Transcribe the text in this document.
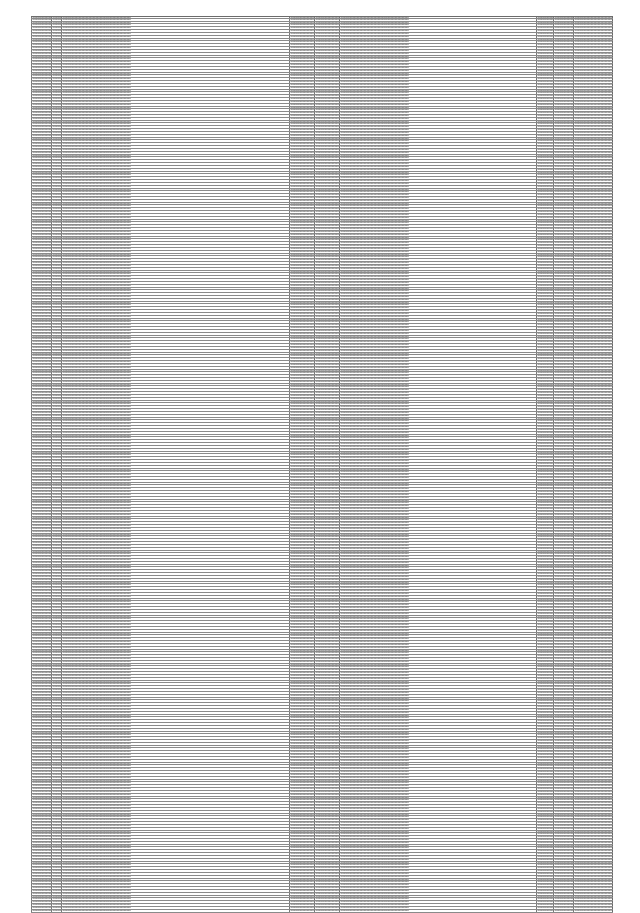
▪▪▪▪▪▪▪▪▪▪▪▪▪▪▪▪▪▪▪▪▪▪	▪▪▪▪▪▪▪▪▪▪▪ ▪▪▪▪▪▪▪▪▪▪▪▪▪▪▪▪▪▪▪▪▪▪▪▪▪▪▪▪▪▪▪▪▪▪▪▪▪▪▪▪▪▪▪▪▪▪▪▪▪▪▪▪▪▪▪▪▪▪▪▪▪▪▪▪▪▪▪▪▪▪▪▪▪▪▪▪▪▪▪▪▪▪▪▪▪▪▪▪	▪▪▪▪▪▪▪▪▪▪▪▪▪▪▪▪▪▪▪▪▪▪▪▪▪▪▪▪▪▪ ▪▪▪▪▪▪▪▪▪▪▪▪▪▪▪▪▪▪▪▪▪▪▪▪▪▪▪▪▪▪ ▪▪▪▪▪▪▪▪▪▪▪▪▪▪▪▪▪▪▪▪▪▪▪▪▪▪▪▪▪▪▪▪▪▪▪▪▪▪▪▪▪▪▪▪▪▪▪▪▪▪▪▪▪▪▪▪▪▪▪▪▪▪▪▪▪▪▪▪▪▪▪▪▪▪▪▪▪▪▪▪▪▪▪▪▪▪▪▪	▪▪▪▪▪▪▪▪▪▪▪▪▪▪▪▪▪▪▪▪▪▪ ▪▪▪▪▪▪▪▪▪▪▪▪▪▪▪▪▪▪▪▪▪▪	▪▪▪▪▪▪▪▪▪▪▪▪▪▪▪▪▪▪▪▪▪▪▪▪▪▪▪▪▪▪▪▪▪▪▪▪▪▪▪▪▪▪▪▪▪▪▪▪▪
▪▪▪▪▪▪▪▪▪▪▪▪▪▪▪▪▪▪▪▪▪▪	▪▪▪▪▪▪▪▪▪▪▪ ▪▪▪▪▪▪▪▪▪▪▪▪▪▪▪▪▪▪▪▪▪▪▪▪▪▪▪▪▪▪▪▪▪▪▪▪▪▪▪▪▪▪▪▪▪▪▪▪▪▪▪▪▪▪▪▪▪▪▪▪▪▪▪▪▪▪▪▪▪▪▪▪▪▪▪▪▪▪▪▪▪▪▪▪▪▪▪▪	▪▪▪▪▪▪▪▪▪▪▪▪▪▪▪▪▪▪▪▪▪▪▪▪▪▪▪▪▪▪ ▪▪▪▪▪▪▪▪▪▪▪▪▪▪▪▪▪▪▪▪▪▪▪▪▪▪▪▪▪▪ ▪▪▪▪▪▪▪▪▪▪▪▪▪▪▪▪▪▪▪▪▪▪▪▪▪▪▪▪▪▪▪▪▪▪▪▪▪▪▪▪▪▪▪▪▪▪▪▪▪▪▪▪▪▪▪▪▪▪▪▪▪▪▪▪▪▪▪▪▪▪▪▪▪▪▪▪▪▪▪▪▪▪▪▪▪▪▪▪	▪▪▪▪▪▪▪▪▪▪▪▪▪▪▪▪▪▪▪▪▪▪ ▪▪▪▪▪▪▪▪▪▪▪▪▪▪▪▪▪▪▪▪▪▪	▪▪▪▪▪▪▪▪▪▪▪▪▪▪▪▪▪▪▪▪▪▪▪▪▪▪▪▪▪▪▪▪▪▪▪▪▪▪▪▪▪▪▪▪▪▪▪▪▪
▪▪▪▪▪▪▪▪▪▪▪▪▪▪▪▪▪▪▪▪▪▪	▪▪▪▪▪▪▪▪▪▪▪ ▪▪▪▪▪▪▪▪▪▪▪▪▪▪▪▪▪▪▪▪▪▪▪▪▪▪▪▪▪▪▪▪▪▪▪▪▪▪▪▪▪▪▪▪▪▪▪▪▪▪▪▪▪▪▪▪▪▪▪▪▪▪▪▪▪▪▪▪▪▪▪▪▪▪▪▪▪▪▪▪▪▪▪▪▪▪▪▪	▪▪▪▪▪▪▪▪▪▪▪▪▪▪▪▪▪▪▪▪▪▪▪▪▪▪▪▪▪▪ ▪▪▪▪▪▪▪▪▪▪▪▪▪▪▪▪▪▪▪▪▪▪▪▪▪▪▪▪▪▪ ▪▪▪▪▪▪▪▪▪▪▪▪▪▪▪▪▪▪▪▪▪▪▪▪▪▪▪▪▪▪▪▪▪▪▪▪▪▪▪▪▪▪▪▪▪▪▪▪▪▪▪▪▪▪▪▪▪▪▪▪▪▪▪▪▪▪▪▪▪▪▪▪▪▪▪▪▪▪▪▪▪▪▪▪▪▪▪▪	▪▪▪▪▪▪▪▪▪▪▪▪▪▪▪▪▪▪▪▪▪▪ ▪▪▪▪▪▪▪▪▪▪▪▪▪▪▪▪▪▪▪▪▪▪	▪▪▪▪▪▪▪▪▪▪▪▪▪▪▪▪▪▪▪▪▪▪▪▪▪▪▪▪▪▪▪▪▪▪▪▪▪▪▪▪▪▪▪▪▪▪▪▪▪
▪▪▪▪▪▪▪▪▪▪▪▪▪▪▪▪▪▪▪▪▪▪	▪▪▪▪▪▪▪▪▪▪▪ ▪▪▪▪▪▪▪▪▪▪▪▪▪▪▪▪▪▪▪▪▪▪▪▪▪▪▪▪▪▪▪▪▪▪▪▪▪▪▪▪▪▪▪▪▪▪▪▪▪▪▪▪▪▪▪▪▪▪▪▪▪▪▪▪▪▪▪▪▪▪▪▪▪▪▪▪▪▪▪▪▪▪▪▪▪▪▪▪	▪▪▪▪▪▪▪▪▪▪▪▪▪▪▪▪▪▪▪▪▪▪▪▪▪▪▪▪▪▪ ▪▪▪▪▪▪▪▪▪▪▪▪▪▪▪▪▪▪▪▪▪▪▪▪▪▪▪▪▪▪ ▪▪▪▪▪▪▪▪▪▪▪▪▪▪▪▪▪▪▪▪▪▪▪▪▪▪▪▪▪▪▪▪▪▪▪▪▪▪▪▪▪▪▪▪▪▪▪▪▪▪▪▪▪▪▪▪▪▪▪▪▪▪▪▪▪▪▪▪▪▪▪▪▪▪▪▪▪▪▪▪▪▪▪▪▪▪▪▪	▪▪▪▪▪▪▪▪▪▪▪▪▪▪▪▪▪▪▪▪▪▪ ▪▪▪▪▪▪▪▪▪▪▪▪▪▪▪▪▪▪▪▪▪▪	▪▪▪▪▪▪▪▪▪▪▪▪▪▪▪▪▪▪▪▪▪▪▪▪▪▪▪▪▪▪▪▪▪▪▪▪▪▪▪▪▪▪▪▪▪▪▪▪▪
▪▪▪▪▪▪▪▪▪▪▪▪▪▪▪▪▪▪▪▪▪▪	▪▪▪▪▪▪▪▪▪▪▪ ▪▪▪▪▪▪▪▪▪▪▪▪▪▪▪▪▪▪▪▪▪▪▪▪▪▪▪▪▪▪▪▪▪▪▪▪▪▪▪▪▪▪▪▪▪▪▪▪▪▪▪▪▪▪▪▪▪▪▪▪▪▪▪▪▪▪▪▪▪▪▪▪▪▪▪▪▪▪▪▪▪▪▪▪▪▪▪▪	▪▪▪▪▪▪▪▪▪▪▪▪▪▪▪▪▪▪▪▪▪▪▪▪▪▪▪▪▪▪ ▪▪▪▪▪▪▪▪▪▪▪▪▪▪▪▪▪▪▪▪▪▪▪▪▪▪▪▪▪▪ ▪▪▪▪▪▪▪▪▪▪▪▪▪▪▪▪▪▪▪▪▪▪▪▪▪▪▪▪▪▪▪▪▪▪▪▪▪▪▪▪▪▪▪▪▪▪▪▪▪▪▪▪▪▪▪▪▪▪▪▪▪▪▪▪▪▪▪▪▪▪▪▪▪▪▪▪▪▪▪▪▪▪▪▪▪▪▪▪	▪▪▪▪▪▪▪▪▪▪▪▪▪▪▪▪▪▪▪▪▪▪ ▪▪▪▪▪▪▪▪▪▪▪▪▪▪▪▪▪▪▪▪▪▪	▪▪▪▪▪▪▪▪▪▪▪▪▪▪▪▪▪▪▪▪▪▪▪▪▪▪▪▪▪▪▪▪▪▪▪▪▪▪▪▪▪▪▪▪▪▪▪▪▪
▪▪▪▪▪▪▪▪▪▪▪▪▪▪▪▪▪▪▪▪▪▪	▪▪▪▪▪▪▪▪▪▪▪ ▪▪▪▪▪▪▪▪▪▪▪▪▪▪▪▪▪▪▪▪▪▪▪▪▪▪▪▪▪▪▪▪▪▪▪▪▪▪▪▪▪▪▪▪▪▪▪▪▪▪▪▪▪▪▪▪▪▪▪▪▪▪▪▪▪▪▪▪▪▪▪▪▪▪▪▪▪▪▪▪▪▪▪▪▪▪▪▪	▪▪▪▪▪▪▪▪▪▪▪▪▪▪▪▪▪▪▪▪▪▪▪▪▪▪▪▪▪▪ ▪▪▪▪▪▪▪▪▪▪▪▪▪▪▪▪▪▪▪▪▪▪▪▪▪▪▪▪▪▪ ▪▪▪▪▪▪▪▪▪▪▪▪▪▪▪▪▪▪▪▪▪▪▪▪▪▪▪▪▪▪▪▪▪▪▪▪▪▪▪▪▪▪▪▪▪▪▪▪▪▪▪▪▪▪▪▪▪▪▪▪▪▪▪▪▪▪▪▪▪▪▪▪▪▪▪▪▪▪▪▪▪▪▪▪▪▪▪▪	▪▪▪▪▪▪▪▪▪▪▪▪▪▪▪▪▪▪▪▪▪▪ ▪▪▪▪▪▪▪▪▪▪▪▪▪▪▪▪▪▪▪▪▪▪	▪▪▪▪▪▪▪▪▪▪▪▪▪▪▪▪▪▪▪▪▪▪▪▪▪▪▪▪▪▪▪▪▪▪▪▪▪▪▪▪▪▪▪▪▪▪▪▪▪
▪▪▪▪▪▪▪▪▪▪▪▪▪▪▪▪▪▪▪▪▪▪	▪▪▪▪▪▪▪▪▪▪▪ ▪▪▪▪▪▪▪▪▪▪▪▪▪▪▪▪▪▪▪▪▪▪▪▪▪▪▪▪▪▪▪▪▪▪▪▪▪▪▪▪▪▪▪▪▪▪▪▪▪▪▪▪▪▪▪▪▪▪▪▪▪▪▪▪▪▪▪▪▪▪▪▪▪▪▪▪▪▪▪▪▪▪▪▪▪▪▪▪	▪▪▪▪▪▪▪▪▪▪▪▪▪▪▪▪▪▪▪▪▪▪▪▪▪▪▪▪▪▪ ▪▪▪▪▪▪▪▪▪▪▪▪▪▪▪▪▪▪▪▪▪▪▪▪▪▪▪▪▪▪ ▪▪▪▪▪▪▪▪▪▪▪▪▪▪▪▪▪▪▪▪▪▪▪▪▪▪▪▪▪▪▪▪▪▪▪▪▪▪▪▪▪▪▪▪▪▪▪▪▪▪▪▪▪▪▪▪▪▪▪▪▪▪▪▪▪▪▪▪▪▪▪▪▪▪▪▪▪▪▪▪▪▪▪▪▪▪▪▪	▪▪▪▪▪▪▪▪▪▪▪▪▪▪▪▪▪▪▪▪▪▪ ▪▪▪▪▪▪▪▪▪▪▪▪▪▪▪▪▪▪▪▪▪▪	▪▪▪▪▪▪▪▪▪▪▪▪▪▪▪▪▪▪▪▪▪▪▪▪▪▪▪▪▪▪▪▪▪▪▪▪▪▪▪▪▪▪▪▪▪▪▪▪▪
▪▪▪▪▪▪▪▪▪▪▪▪▪▪▪▪▪▪▪▪▪▪	▪▪▪▪▪▪▪▪▪▪▪ ▪▪▪▪▪▪▪▪▪▪▪▪▪▪▪▪▪▪▪▪▪▪▪▪▪▪▪▪▪▪▪▪▪▪▪▪▪▪▪▪▪▪▪▪▪▪▪▪▪▪▪▪▪▪▪▪▪▪▪▪▪▪▪▪▪▪▪▪▪▪▪▪▪▪▪▪▪▪▪▪▪▪▪▪▪▪▪▪	▪▪▪▪▪▪▪▪▪▪▪▪▪▪▪▪▪▪▪▪▪▪▪▪▪▪▪▪▪▪ ▪▪▪▪▪▪▪▪▪▪▪▪▪▪▪▪▪▪▪▪▪▪▪▪▪▪▪▪▪▪ ▪▪▪▪▪▪▪▪▪▪▪▪▪▪▪▪▪▪▪▪▪▪▪▪▪▪▪▪▪▪▪▪▪▪▪▪▪▪▪▪▪▪▪▪▪▪▪▪▪▪▪▪▪▪▪▪▪▪▪▪▪▪▪▪▪▪▪▪▪▪▪▪▪▪▪▪▪▪▪▪▪▪▪▪▪▪▪▪	▪▪▪▪▪▪▪▪▪▪▪▪▪▪▪▪▪▪▪▪▪▪ ▪▪▪▪▪▪▪▪▪▪▪▪▪▪▪▪▪▪▪▪▪▪	▪▪▪▪▪▪▪▪▪▪▪▪▪▪▪▪▪▪▪▪▪▪▪▪▪▪▪▪▪▪▪▪▪▪▪▪▪▪▪▪▪▪▪▪▪▪▪▪▪
▪▪▪▪▪▪▪▪▪▪▪▪▪▪▪▪▪▪▪▪▪▪	▪▪▪▪▪▪▪▪▪▪▪ ▪▪▪▪▪▪▪▪▪▪▪▪▪▪▪▪▪▪▪▪▪▪▪▪▪▪▪▪▪▪▪▪▪▪▪▪▪▪▪▪▪▪▪▪▪▪▪▪▪▪▪▪▪▪▪▪▪▪▪▪▪▪▪▪▪▪▪▪▪▪▪▪▪▪▪▪▪▪▪▪▪▪▪▪▪▪▪▪	▪▪▪▪▪▪▪▪▪▪▪▪▪▪▪▪▪▪▪▪▪▪▪▪▪▪▪▪▪▪ ▪▪▪▪▪▪▪▪▪▪▪▪▪▪▪▪▪▪▪▪▪▪▪▪▪▪▪▪▪▪ ▪▪▪▪▪▪▪▪▪▪▪▪▪▪▪▪▪▪▪▪▪▪▪▪▪▪▪▪▪▪▪▪▪▪▪▪▪▪▪▪▪▪▪▪▪▪▪▪▪▪▪▪▪▪▪▪▪▪▪▪▪▪▪▪▪▪▪▪▪▪▪▪▪▪▪▪▪▪▪▪▪▪▪▪▪▪▪▪	▪▪▪▪▪▪▪▪▪▪▪▪▪▪▪▪▪▪▪▪▪▪ ▪▪▪▪▪▪▪▪▪▪▪▪▪▪▪▪▪▪▪▪▪▪	▪▪▪▪▪▪▪▪▪▪▪▪▪▪▪▪▪▪▪▪▪▪▪▪▪▪▪▪▪▪▪▪▪▪▪▪▪▪▪▪▪▪▪▪▪▪▪▪▪
▪▪▪▪▪▪▪▪▪▪▪▪▪▪▪▪▪▪▪▪▪▪	▪▪▪▪▪▪▪▪▪▪▪ ▪▪▪▪▪▪▪▪▪▪▪▪▪▪▪▪▪▪▪▪▪▪▪▪▪▪▪▪▪▪▪▪▪▪▪▪▪▪▪▪▪▪▪▪▪▪▪▪▪▪▪▪▪▪▪▪▪▪▪▪▪▪▪▪▪▪▪▪▪▪▪▪▪▪▪▪▪▪▪▪▪▪▪▪▪▪▪▪	▪▪▪▪▪▪▪▪▪▪▪▪▪▪▪▪▪▪▪▪▪▪▪▪▪▪▪▪▪▪ ▪▪▪▪▪▪▪▪▪▪▪▪▪▪▪▪▪▪▪▪▪▪▪▪▪▪▪▪▪▪ ▪▪▪▪▪▪▪▪▪▪▪▪▪▪▪▪▪▪▪▪▪▪▪▪▪▪▪▪▪▪▪▪▪▪▪▪▪▪▪▪▪▪▪▪▪▪▪▪▪▪▪▪▪▪▪▪▪▪▪▪▪▪▪▪▪▪▪▪▪▪▪▪▪▪▪▪▪▪▪▪▪▪▪▪▪▪▪▪	▪▪▪▪▪▪▪▪▪▪▪▪▪▪▪▪▪▪▪▪▪▪ ▪▪▪▪▪▪▪▪▪▪▪▪▪▪▪▪▪▪▪▪▪▪	▪▪▪▪▪▪▪▪▪▪▪▪▪▪▪▪▪▪▪▪▪▪▪▪▪▪▪▪▪▪▪▪▪▪▪▪▪▪▪▪▪▪▪▪▪▪▪▪▪
▪▪▪▪▪▪▪▪▪▪▪▪▪▪▪▪▪▪▪▪▪▪	▪▪▪▪▪▪▪▪▪▪▪ ▪▪▪▪▪▪▪▪▪▪▪▪▪▪▪▪▪▪▪▪▪▪▪▪▪▪▪▪▪▪▪▪▪▪▪▪▪▪▪▪▪▪▪▪▪▪▪▪▪▪▪▪▪▪▪▪▪▪▪▪▪▪▪▪▪▪▪▪▪▪▪▪▪▪▪▪▪▪▪▪▪▪▪▪▪▪▪▪	▪▪▪▪▪▪▪▪▪▪▪▪▪▪▪▪▪▪▪▪▪▪▪▪▪▪▪▪▪▪ ▪▪▪▪▪▪▪▪▪▪▪▪▪▪▪▪▪▪▪▪▪▪▪▪▪▪▪▪▪▪ ▪▪▪▪▪▪▪▪▪▪▪▪▪▪▪▪▪▪▪▪▪▪▪▪▪▪▪▪▪▪▪▪▪▪▪▪▪▪▪▪▪▪▪▪▪▪▪▪▪▪▪▪▪▪▪▪▪▪▪▪▪▪▪▪▪▪▪▪▪▪▪▪▪▪▪▪▪▪▪▪▪▪▪▪▪▪▪▪	▪▪▪▪▪▪▪▪▪▪▪▪▪▪▪▪▪▪▪▪▪▪ ▪▪▪▪▪▪▪▪▪▪▪▪▪▪▪▪▪▪▪▪▪▪	▪▪▪▪▪▪▪▪▪▪▪▪▪▪▪▪▪▪▪▪▪▪▪▪▪▪▪▪▪▪▪▪▪▪▪▪▪▪▪▪▪▪▪▪▪▪▪▪▪
▪▪▪▪▪▪▪▪▪▪▪▪▪▪▪▪▪▪▪▪▪▪	▪▪▪▪▪▪▪▪▪▪▪ ▪▪▪▪▪▪▪▪▪▪▪▪▪▪▪▪▪▪▪▪▪▪▪▪▪▪▪▪▪▪▪▪▪▪▪▪▪▪▪▪▪▪▪▪▪▪▪▪▪▪▪▪▪▪▪▪▪▪▪▪▪▪▪▪▪▪▪▪▪▪▪▪▪▪▪▪▪▪▪▪▪▪▪▪▪▪▪▪	▪▪▪▪▪▪▪▪▪▪▪▪▪▪▪▪▪▪▪▪▪▪▪▪▪▪▪▪▪▪ ▪▪▪▪▪▪▪▪▪▪▪▪▪▪▪▪▪▪▪▪▪▪▪▪▪▪▪▪▪▪ ▪▪▪▪▪▪▪▪▪▪▪▪▪▪▪▪▪▪▪▪▪▪▪▪▪▪▪▪▪▪▪▪▪▪▪▪▪▪▪▪▪▪▪▪▪▪▪▪▪▪▪▪▪▪▪▪▪▪▪▪▪▪▪▪▪▪▪▪▪▪▪▪▪▪▪▪▪▪▪▪▪▪▪▪▪▪▪▪	▪▪▪▪▪▪▪▪▪▪▪▪▪▪▪▪▪▪▪▪▪▪ ▪▪▪▪▪▪▪▪▪▪▪▪▪▪▪▪▪▪▪▪▪▪	▪▪▪▪▪▪▪▪▪▪▪▪▪▪▪▪▪▪▪▪▪▪▪▪▪▪▪▪▪▪▪▪▪▪▪▪▪▪▪▪▪▪▪▪▪▪▪▪▪
▪▪▪▪▪▪▪▪▪▪▪▪▪▪▪▪▪▪▪▪▪▪	▪▪▪▪▪▪▪▪▪▪▪ ▪▪▪▪▪▪▪▪▪▪▪▪▪▪▪▪▪▪▪▪▪▪▪▪▪▪▪▪▪▪▪▪▪▪▪▪▪▪▪▪▪▪▪▪▪▪▪▪▪▪▪▪▪▪▪▪▪▪▪▪▪▪▪▪▪▪▪▪▪▪▪▪▪▪▪▪▪▪▪▪▪▪▪▪▪▪▪▪	▪▪▪▪▪▪▪▪▪▪▪▪▪▪▪▪▪▪▪▪▪▪▪▪▪▪▪▪▪▪ ▪▪▪▪▪▪▪▪▪▪▪▪▪▪▪▪▪▪▪▪▪▪▪▪▪▪▪▪▪▪ ▪▪▪▪▪▪▪▪▪▪▪▪▪▪▪▪▪▪▪▪▪▪▪▪▪▪▪▪▪▪▪▪▪▪▪▪▪▪▪▪▪▪▪▪▪▪▪▪▪▪▪▪▪▪▪▪▪▪▪▪▪▪▪▪▪▪▪▪▪▪▪▪▪▪▪▪▪▪▪▪▪▪▪▪▪▪▪▪	▪▪▪▪▪▪▪▪▪▪▪▪▪▪▪▪▪▪▪▪▪▪ ▪▪▪▪▪▪▪▪▪▪▪▪▪▪▪▪▪▪▪▪▪▪	▪▪▪▪▪▪▪▪▪▪▪▪▪▪▪▪▪▪▪▪▪▪▪▪▪▪▪▪▪▪▪▪▪▪▪▪▪▪▪▪▪▪▪▪▪▪▪▪▪
▪▪▪▪▪▪▪▪▪▪▪▪▪▪▪▪▪▪▪▪▪▪	▪▪▪▪▪▪▪▪▪▪▪ ▪▪▪▪▪▪▪▪▪▪▪▪▪▪▪▪▪▪▪▪▪▪▪▪▪▪▪▪▪▪▪▪▪▪▪▪▪▪▪▪▪▪▪▪▪▪▪▪▪▪▪▪▪▪▪▪▪▪▪▪▪▪▪▪▪▪▪▪▪▪▪▪▪▪▪▪▪▪▪▪▪▪▪▪▪▪▪▪	▪▪▪▪▪▪▪▪▪▪▪▪▪▪▪▪▪▪▪▪▪▪▪▪▪▪▪▪▪▪ ▪▪▪▪▪▪▪▪▪▪▪▪▪▪▪▪▪▪▪▪▪▪▪▪▪▪▪▪▪▪ ▪▪▪▪▪▪▪▪▪▪▪▪▪▪▪▪▪▪▪▪▪▪▪▪▪▪▪▪▪▪▪▪▪▪▪▪▪▪▪▪▪▪▪▪▪▪▪▪▪▪▪▪▪▪▪▪▪▪▪▪▪▪▪▪▪▪▪▪▪▪▪▪▪▪▪▪▪▪▪▪▪▪▪▪▪▪▪▪	▪▪▪▪▪▪▪▪▪▪▪▪▪▪▪▪▪▪▪▪▪▪ ▪▪▪▪▪▪▪▪▪▪▪▪▪▪▪▪▪▪▪▪▪▪	▪▪▪▪▪▪▪▪▪▪▪▪▪▪▪▪▪▪▪▪▪▪▪▪▪▪▪▪▪▪▪▪▪▪▪▪▪▪▪▪▪▪▪▪▪▪▪▪▪
▪▪▪▪▪▪▪▪▪▪▪▪▪▪▪▪▪▪▪▪▪▪	▪▪▪▪▪▪▪▪▪▪▪ ▪▪▪▪▪▪▪▪▪▪▪▪▪▪▪▪▪▪▪▪▪▪▪▪▪▪▪▪▪▪▪▪▪▪▪▪▪▪▪▪▪▪▪▪▪▪▪▪▪▪▪▪▪▪▪▪▪▪▪▪▪▪▪▪▪▪▪▪▪▪▪▪▪▪▪▪▪▪▪▪▪▪▪▪▪▪▪▪	▪▪▪▪▪▪▪▪▪▪▪▪▪▪▪▪▪▪▪▪▪▪▪▪▪▪▪▪▪▪ ▪▪▪▪▪▪▪▪▪▪▪▪▪▪▪▪▪▪▪▪▪▪▪▪▪▪▪▪▪▪ ▪▪▪▪▪▪▪▪▪▪▪▪▪▪▪▪▪▪▪▪▪▪▪▪▪▪▪▪▪▪▪▪▪▪▪▪▪▪▪▪▪▪▪▪▪▪▪▪▪▪▪▪▪▪▪▪▪▪▪▪▪▪▪▪▪▪▪▪▪▪▪▪▪▪▪▪▪▪▪▪▪▪▪▪▪▪▪▪	▪▪▪▪▪▪▪▪▪▪▪▪▪▪▪▪▪▪▪▪▪▪ ▪▪▪▪▪▪▪▪▪▪▪▪▪▪▪▪▪▪▪▪▪▪	▪▪▪▪▪▪▪▪▪▪▪▪▪▪▪▪▪▪▪▪▪▪▪▪▪▪▪▪▪▪▪▪▪▪▪▪▪▪▪▪▪▪▪▪▪▪▪▪▪
▪▪▪▪▪▪▪▪▪▪▪▪▪▪▪▪▪▪▪▪▪▪	▪▪▪▪▪▪▪▪▪▪▪ ▪▪▪▪▪▪▪▪▪▪▪▪▪▪▪▪▪▪▪▪▪▪▪▪▪▪▪▪▪▪▪▪▪▪▪▪▪▪▪▪▪▪▪▪▪▪▪▪▪▪▪▪▪▪▪▪▪▪▪▪▪▪▪▪▪▪▪▪▪▪▪▪▪▪▪▪▪▪▪▪▪▪▪▪▪▪▪▪	▪▪▪▪▪▪▪▪▪▪▪▪▪▪▪▪▪▪▪▪▪▪▪▪▪▪▪▪▪▪ ▪▪▪▪▪▪▪▪▪▪▪▪▪▪▪▪▪▪▪▪▪▪▪▪▪▪▪▪▪▪ ▪▪▪▪▪▪▪▪▪▪▪▪▪▪▪▪▪▪▪▪▪▪▪▪▪▪▪▪▪▪▪▪▪▪▪▪▪▪▪▪▪▪▪▪▪▪▪▪▪▪▪▪▪▪▪▪▪▪▪▪▪▪▪▪▪▪▪▪▪▪▪▪▪▪▪▪▪▪▪▪▪▪▪▪▪▪▪▪	▪▪▪▪▪▪▪▪▪▪▪▪▪▪▪▪▪▪▪▪▪▪ ▪▪▪▪▪▪▪▪▪▪▪▪▪▪▪▪▪▪▪▪▪▪	▪▪▪▪▪▪▪▪▪▪▪▪▪▪▪▪▪▪▪▪▪▪▪▪▪▪▪▪▪▪▪▪▪▪▪▪▪▪▪▪▪▪▪▪▪▪▪▪▪
▪▪▪▪▪▪▪▪▪▪▪▪▪▪▪▪▪▪▪▪▪▪	▪▪▪▪▪▪▪▪▪▪▪ ▪▪▪▪▪▪▪▪▪▪▪▪▪▪▪▪▪▪▪▪▪▪▪▪▪▪▪▪▪▪▪▪▪▪▪▪▪▪▪▪▪▪▪▪▪▪▪▪▪▪▪▪▪▪▪▪▪▪▪▪▪▪▪▪▪▪▪▪▪▪▪▪▪▪▪▪▪▪▪▪▪▪▪▪▪▪▪▪	▪▪▪▪▪▪▪▪▪▪▪▪▪▪▪▪▪▪▪▪▪▪▪▪▪▪▪▪▪▪ ▪▪▪▪▪▪▪▪▪▪▪▪▪▪▪▪▪▪▪▪▪▪▪▪▪▪▪▪▪▪ ▪▪▪▪▪▪▪▪▪▪▪▪▪▪▪▪▪▪▪▪▪▪▪▪▪▪▪▪▪▪▪▪▪▪▪▪▪▪▪▪▪▪▪▪▪▪▪▪▪▪▪▪▪▪▪▪▪▪▪▪▪▪▪▪▪▪▪▪▪▪▪▪▪▪▪▪▪▪▪▪▪▪▪▪▪▪▪▪	▪▪▪▪▪▪▪▪▪▪▪▪▪▪▪▪▪▪▪▪▪▪ ▪▪▪▪▪▪▪▪▪▪▪▪▪▪▪▪▪▪▪▪▪▪	▪▪▪▪▪▪▪▪▪▪▪▪▪▪▪▪▪▪▪▪▪▪▪▪▪▪▪▪▪▪▪▪▪▪▪▪▪▪▪▪▪▪▪▪▪▪▪▪▪
▪▪▪▪▪▪▪▪▪▪▪▪▪▪▪▪▪▪▪▪▪▪	▪▪▪▪▪▪▪▪▪▪▪ ▪▪▪▪▪▪▪▪▪▪▪▪▪▪▪▪▪▪▪▪▪▪▪▪▪▪▪▪▪▪▪▪▪▪▪▪▪▪▪▪▪▪▪▪▪▪▪▪▪▪▪▪▪▪▪▪▪▪▪▪▪▪▪▪▪▪▪▪▪▪▪▪▪▪▪▪▪▪▪▪▪▪▪▪▪▪▪▪	▪▪▪▪▪▪▪▪▪▪▪▪▪▪▪▪▪▪▪▪▪▪▪▪▪▪▪▪▪▪ ▪▪▪▪▪▪▪▪▪▪▪▪▪▪▪▪▪▪▪▪▪▪▪▪▪▪▪▪▪▪ ▪▪▪▪▪▪▪▪▪▪▪▪▪▪▪▪▪▪▪▪▪▪▪▪▪▪▪▪▪▪▪▪▪▪▪▪▪▪▪▪▪▪▪▪▪▪▪▪▪▪▪▪▪▪▪▪▪▪▪▪▪▪▪▪▪▪▪▪▪▪▪▪▪▪▪▪▪▪▪▪▪▪▪▪▪▪▪▪	▪▪▪▪▪▪▪▪▪▪▪▪▪▪▪▪▪▪▪▪▪▪ ▪▪▪▪▪▪▪▪▪▪▪▪▪▪▪▪▪▪▪▪▪▪	▪▪▪▪▪▪▪▪▪▪▪▪▪▪▪▪▪▪▪▪▪▪▪▪▪▪▪▪▪▪▪▪▪▪▪▪▪▪▪▪▪▪▪▪▪▪▪▪▪
▪▪▪▪▪▪▪▪▪▪▪▪▪▪▪▪▪▪▪▪▪▪	▪▪▪▪▪▪▪▪▪▪▪ ▪▪▪▪▪▪▪▪▪▪▪▪▪▪▪▪▪▪▪▪▪▪▪▪▪▪▪▪▪▪▪▪▪▪▪▪▪▪▪▪▪▪▪▪▪▪▪▪▪▪▪▪▪▪▪▪▪▪▪▪▪▪▪▪▪▪▪▪▪▪▪▪▪▪▪▪▪▪▪▪▪▪▪▪▪▪▪▪	▪▪▪▪▪▪▪▪▪▪▪▪▪▪▪▪▪▪▪▪▪▪▪▪▪▪▪▪▪▪ ▪▪▪▪▪▪▪▪▪▪▪▪▪▪▪▪▪▪▪▪▪▪▪▪▪▪▪▪▪▪ ▪▪▪▪▪▪▪▪▪▪▪▪▪▪▪▪▪▪▪▪▪▪▪▪▪▪▪▪▪▪▪▪▪▪▪▪▪▪▪▪▪▪▪▪▪▪▪▪▪▪▪▪▪▪▪▪▪▪▪▪▪▪▪▪▪▪▪▪▪▪▪▪▪▪▪▪▪▪▪▪▪▪▪▪▪▪▪▪	▪▪▪▪▪▪▪▪▪▪▪▪▪▪▪▪▪▪▪▪▪▪ ▪▪▪▪▪▪▪▪▪▪▪▪▪▪▪▪▪▪▪▪▪▪	▪▪▪▪▪▪▪▪▪▪▪▪▪▪▪▪▪▪▪▪▪▪▪▪▪▪▪▪▪▪▪▪▪▪▪▪▪▪▪▪▪▪▪▪▪▪▪▪▪
▪▪▪▪▪▪▪▪▪▪▪▪▪▪▪▪▪▪▪▪▪▪	▪▪▪▪▪▪▪▪▪▪▪ ▪▪▪▪▪▪▪▪▪▪▪▪▪▪▪▪▪▪▪▪▪▪▪▪▪▪▪▪▪▪▪▪▪▪▪▪▪▪▪▪▪▪▪▪▪▪▪▪▪▪▪▪▪▪▪▪▪▪▪▪▪▪▪▪▪▪▪▪▪▪▪▪▪▪▪▪▪▪▪▪▪▪▪▪▪▪▪▪	▪▪▪▪▪▪▪▪▪▪▪▪▪▪▪▪▪▪▪▪▪▪▪▪▪▪▪▪▪▪ ▪▪▪▪▪▪▪▪▪▪▪▪▪▪▪▪▪▪▪▪▪▪▪▪▪▪▪▪▪▪ ▪▪▪▪▪▪▪▪▪▪▪▪▪▪▪▪▪▪▪▪▪▪▪▪▪▪▪▪▪▪▪▪▪▪▪▪▪▪▪▪▪▪▪▪▪▪▪▪▪▪▪▪▪▪▪▪▪▪▪▪▪▪▪▪▪▪▪▪▪▪▪▪▪▪▪▪▪▪▪▪▪▪▪▪▪▪▪▪	▪▪▪▪▪▪▪▪▪▪▪▪▪▪▪▪▪▪▪▪▪▪ ▪▪▪▪▪▪▪▪▪▪▪▪▪▪▪▪▪▪▪▪▪▪	▪▪▪▪▪▪▪▪▪▪▪▪▪▪▪▪▪▪▪▪▪▪▪▪▪▪▪▪▪▪▪▪▪▪▪▪▪▪▪▪▪▪▪▪▪▪▪▪▪
▪▪▪▪▪▪▪▪▪▪▪▪▪▪▪▪▪▪▪▪▪▪	▪▪▪▪▪▪▪▪▪▪▪ ▪▪▪▪▪▪▪▪▪▪▪▪▪▪▪▪▪▪▪▪▪▪▪▪▪▪▪▪▪▪▪▪▪▪▪▪▪▪▪▪▪▪▪▪▪▪▪▪▪▪▪▪▪▪▪▪▪▪▪▪▪▪▪▪▪▪▪▪▪▪▪▪▪▪▪▪▪▪▪▪▪▪▪▪▪▪▪▪	▪▪▪▪▪▪▪▪▪▪▪▪▪▪▪▪▪▪▪▪▪▪▪▪▪▪▪▪▪▪ ▪▪▪▪▪▪▪▪▪▪▪▪▪▪▪▪▪▪▪▪▪▪▪▪▪▪▪▪▪▪ ▪▪▪▪▪▪▪▪▪▪▪▪▪▪▪▪▪▪▪▪▪▪▪▪▪▪▪▪▪▪▪▪▪▪▪▪▪▪▪▪▪▪▪▪▪▪▪▪▪▪▪▪▪▪▪▪▪▪▪▪▪▪▪▪▪▪▪▪▪▪▪▪▪▪▪▪▪▪▪▪▪▪▪▪▪▪▪▪	▪▪▪▪▪▪▪▪▪▪▪▪▪▪▪▪▪▪▪▪▪▪ ▪▪▪▪▪▪▪▪▪▪▪▪▪▪▪▪▪▪▪▪▪▪	▪▪▪▪▪▪▪▪▪▪▪▪▪▪▪▪▪▪▪▪▪▪▪▪▪▪▪▪▪▪▪▪▪▪▪▪▪▪▪▪▪▪▪▪▪▪▪▪▪
▪▪▪▪▪▪▪▪▪▪▪▪▪▪▪▪▪▪▪▪▪▪	▪▪▪▪▪▪▪▪▪▪▪ ▪▪▪▪▪▪▪▪▪▪▪▪▪▪▪▪▪▪▪▪▪▪▪▪▪▪▪▪▪▪▪▪▪▪▪▪▪▪▪▪▪▪▪▪▪▪▪▪▪▪▪▪▪▪▪▪▪▪▪▪▪▪▪▪▪▪▪▪▪▪▪▪▪▪▪▪▪▪▪▪▪▪▪▪▪▪▪▪	▪▪▪▪▪▪▪▪▪▪▪▪▪▪▪▪▪▪▪▪▪▪▪▪▪▪▪▪▪▪ ▪▪▪▪▪▪▪▪▪▪▪▪▪▪▪▪▪▪▪▪▪▪▪▪▪▪▪▪▪▪ ▪▪▪▪▪▪▪▪▪▪▪▪▪▪▪▪▪▪▪▪▪▪▪▪▪▪▪▪▪▪▪▪▪▪▪▪▪▪▪▪▪▪▪▪▪▪▪▪▪▪▪▪▪▪▪▪▪▪▪▪▪▪▪▪▪▪▪▪▪▪▪▪▪▪▪▪▪▪▪▪▪▪▪▪▪▪▪▪	▪▪▪▪▪▪▪▪▪▪▪▪▪▪▪▪▪▪▪▪▪▪ ▪▪▪▪▪▪▪▪▪▪▪▪▪▪▪▪▪▪▪▪▪▪	▪▪▪▪▪▪▪▪▪▪▪▪▪▪▪▪▪▪▪▪▪▪▪▪▪▪▪▪▪▪▪▪▪▪▪▪▪▪▪▪▪▪▪▪▪▪▪▪▪
▪▪▪▪▪▪▪▪▪▪▪▪▪▪▪▪▪▪▪▪▪▪	▪▪▪▪▪▪▪▪▪▪▪ ▪▪▪▪▪▪▪▪▪▪▪▪▪▪▪▪▪▪▪▪▪▪▪▪▪▪▪▪▪▪▪▪▪▪▪▪▪▪▪▪▪▪▪▪▪▪▪▪▪▪▪▪▪▪▪▪▪▪▪▪▪▪▪▪▪▪▪▪▪▪▪▪▪▪▪▪▪▪▪▪▪▪▪▪▪▪▪▪	▪▪▪▪▪▪▪▪▪▪▪▪▪▪▪▪▪▪▪▪▪▪▪▪▪▪▪▪▪▪ ▪▪▪▪▪▪▪▪▪▪▪▪▪▪▪▪▪▪▪▪▪▪▪▪▪▪▪▪▪▪ ▪▪▪▪▪▪▪▪▪▪▪▪▪▪▪▪▪▪▪▪▪▪▪▪▪▪▪▪▪▪▪▪▪▪▪▪▪▪▪▪▪▪▪▪▪▪▪▪▪▪▪▪▪▪▪▪▪▪▪▪▪▪▪▪▪▪▪▪▪▪▪▪▪▪▪▪▪▪▪▪▪▪▪▪▪▪▪▪	▪▪▪▪▪▪▪▪▪▪▪▪▪▪▪▪▪▪▪▪▪▪ ▪▪▪▪▪▪▪▪▪▪▪▪▪▪▪▪▪▪▪▪▪▪	▪▪▪▪▪▪▪▪▪▪▪▪▪▪▪▪▪▪▪▪▪▪▪▪▪▪▪▪▪▪▪▪▪▪▪▪▪▪▪▪▪▪▪▪▪▪▪▪▪
▪▪▪▪▪▪▪▪▪▪▪▪▪▪▪▪▪▪▪▪▪▪	▪▪▪▪▪▪▪▪▪▪▪ ▪▪▪▪▪▪▪▪▪▪▪▪▪▪▪▪▪▪▪▪▪▪▪▪▪▪▪▪▪▪▪▪▪▪▪▪▪▪▪▪▪▪▪▪▪▪▪▪▪▪▪▪▪▪▪▪▪▪▪▪▪▪▪▪▪▪▪▪▪▪▪▪▪▪▪▪▪▪▪▪▪▪▪▪▪▪▪▪	▪▪▪▪▪▪▪▪▪▪▪▪▪▪▪▪▪▪▪▪▪▪▪▪▪▪▪▪▪▪ ▪▪▪▪▪▪▪▪▪▪▪▪▪▪▪▪▪▪▪▪▪▪▪▪▪▪▪▪▪▪ ▪▪▪▪▪▪▪▪▪▪▪▪▪▪▪▪▪▪▪▪▪▪▪▪▪▪▪▪▪▪▪▪▪▪▪▪▪▪▪▪▪▪▪▪▪▪▪▪▪▪▪▪▪▪▪▪▪▪▪▪▪▪▪▪▪▪▪▪▪▪▪▪▪▪▪▪▪▪▪▪▪▪▪▪▪▪▪▪	▪▪▪▪▪▪▪▪▪▪▪▪▪▪▪▪▪▪▪▪▪▪ ▪▪▪▪▪▪▪▪▪▪▪▪▪▪▪▪▪▪▪▪▪▪	▪▪▪▪▪▪▪▪▪▪▪▪▪▪▪▪▪▪▪▪▪▪▪▪▪▪▪▪▪▪▪▪▪▪▪▪▪▪▪▪▪▪▪▪▪▪▪▪▪
▪▪▪▪▪▪▪▪▪▪▪▪▪▪▪▪▪▪▪▪▪▪	▪▪▪▪▪▪▪▪▪▪▪ ▪▪▪▪▪▪▪▪▪▪▪▪▪▪▪▪▪▪▪▪▪▪▪▪▪▪▪▪▪▪▪▪▪▪▪▪▪▪▪▪▪▪▪▪▪▪▪▪▪▪▪▪▪▪▪▪▪▪▪▪▪▪▪▪▪▪▪▪▪▪▪▪▪▪▪▪▪▪▪▪▪▪▪▪▪▪▪▪	▪▪▪▪▪▪▪▪▪▪▪▪▪▪▪▪▪▪▪▪▪▪▪▪▪▪▪▪▪▪ ▪▪▪▪▪▪▪▪▪▪▪▪▪▪▪▪▪▪▪▪▪▪▪▪▪▪▪▪▪▪ ▪▪▪▪▪▪▪▪▪▪▪▪▪▪▪▪▪▪▪▪▪▪▪▪▪▪▪▪▪▪▪▪▪▪▪▪▪▪▪▪▪▪▪▪▪▪▪▪▪▪▪▪▪▪▪▪▪▪▪▪▪▪▪▪▪▪▪▪▪▪▪▪▪▪▪▪▪▪▪▪▪▪▪▪▪▪▪▪	▪▪▪▪▪▪▪▪▪▪▪▪▪▪▪▪▪▪▪▪▪▪ ▪▪▪▪▪▪▪▪▪▪▪▪▪▪▪▪▪▪▪▪▪▪	▪▪▪▪▪▪▪▪▪▪▪▪▪▪▪▪▪▪▪▪▪▪▪▪▪▪▪▪▪▪▪▪▪▪▪▪▪▪▪▪▪▪▪▪▪▪▪▪▪
▪▪▪▪▪▪▪▪▪▪▪▪▪▪▪▪▪▪▪▪▪▪	▪▪▪▪▪▪▪▪▪▪▪ ▪▪▪▪▪▪▪▪▪▪▪▪▪▪▪▪▪▪▪▪▪▪▪▪▪▪▪▪▪▪▪▪▪▪▪▪▪▪▪▪▪▪▪▪▪▪▪▪▪▪▪▪▪▪▪▪▪▪▪▪▪▪▪▪▪▪▪▪▪▪▪▪▪▪▪▪▪▪▪▪▪▪▪▪▪▪▪▪	▪▪▪▪▪▪▪▪▪▪▪▪▪▪▪▪▪▪▪▪▪▪▪▪▪▪▪▪▪▪ ▪▪▪▪▪▪▪▪▪▪▪▪▪▪▪▪▪▪▪▪▪▪▪▪▪▪▪▪▪▪ ▪▪▪▪▪▪▪▪▪▪▪▪▪▪▪▪▪▪▪▪▪▪▪▪▪▪▪▪▪▪▪▪▪▪▪▪▪▪▪▪▪▪▪▪▪▪▪▪▪▪▪▪▪▪▪▪▪▪▪▪▪▪▪▪▪▪▪▪▪▪▪▪▪▪▪▪▪▪▪▪▪▪▪▪▪▪▪▪	▪▪▪▪▪▪▪▪▪▪▪▪▪▪▪▪▪▪▪▪▪▪ ▪▪▪▪▪▪▪▪▪▪▪▪▪▪▪▪▪▪▪▪▪▪	▪▪▪▪▪▪▪▪▪▪▪▪▪▪▪▪▪▪▪▪▪▪▪▪▪▪▪▪▪▪▪▪▪▪▪▪▪▪▪▪▪▪▪▪▪▪▪▪▪
▪▪▪▪▪▪▪▪▪▪▪▪▪▪▪▪▪▪▪▪▪▪	▪▪▪▪▪▪▪▪▪▪▪ ▪▪▪▪▪▪▪▪▪▪▪▪▪▪▪▪▪▪▪▪▪▪▪▪▪▪▪▪▪▪▪▪▪▪▪▪▪▪▪▪▪▪▪▪▪▪▪▪▪▪▪▪▪▪▪▪▪▪▪▪▪▪▪▪▪▪▪▪▪▪▪▪▪▪▪▪▪▪▪▪▪▪▪▪▪▪▪▪	▪▪▪▪▪▪▪▪▪▪▪▪▪▪▪▪▪▪▪▪▪▪▪▪▪▪▪▪▪▪ ▪▪▪▪▪▪▪▪▪▪▪▪▪▪▪▪▪▪▪▪▪▪▪▪▪▪▪▪▪▪ ▪▪▪▪▪▪▪▪▪▪▪▪▪▪▪▪▪▪▪▪▪▪▪▪▪▪▪▪▪▪▪▪▪▪▪▪▪▪▪▪▪▪▪▪▪▪▪▪▪▪▪▪▪▪▪▪▪▪▪▪▪▪▪▪▪▪▪▪▪▪▪▪▪▪▪▪▪▪▪▪▪▪▪▪▪▪▪▪	▪▪▪▪▪▪▪▪▪▪▪▪▪▪▪▪▪▪▪▪▪▪ ▪▪▪▪▪▪▪▪▪▪▪▪▪▪▪▪▪▪▪▪▪▪	▪▪▪▪▪▪▪▪▪▪▪▪▪▪▪▪▪▪▪▪▪▪▪▪▪▪▪▪▪▪▪▪▪▪▪▪▪▪▪▪▪▪▪▪▪▪▪▪▪
▪▪▪▪▪▪▪▪▪▪▪▪▪▪▪▪▪▪▪▪▪▪	▪▪▪▪▪▪▪▪▪▪▪ ▪▪▪▪▪▪▪▪▪▪▪▪▪▪▪▪▪▪▪▪▪▪▪▪▪▪▪▪▪▪▪▪▪▪▪▪▪▪▪▪▪▪▪▪▪▪▪▪▪▪▪▪▪▪▪▪▪▪▪▪▪▪▪▪▪▪▪▪▪▪▪▪▪▪▪▪▪▪▪▪▪▪▪▪▪▪▪▪	▪▪▪▪▪▪▪▪▪▪▪▪▪▪▪▪▪▪▪▪▪▪▪▪▪▪▪▪▪▪ ▪▪▪▪▪▪▪▪▪▪▪▪▪▪▪▪▪▪▪▪▪▪▪▪▪▪▪▪▪▪ ▪▪▪▪▪▪▪▪▪▪▪▪▪▪▪▪▪▪▪▪▪▪▪▪▪▪▪▪▪▪▪▪▪▪▪▪▪▪▪▪▪▪▪▪▪▪▪▪▪▪▪▪▪▪▪▪▪▪▪▪▪▪▪▪▪▪▪▪▪▪▪▪▪▪▪▪▪▪▪▪▪▪▪▪▪▪▪▪	▪▪▪▪▪▪▪▪▪▪▪▪▪▪▪▪▪▪▪▪▪▪ ▪▪▪▪▪▪▪▪▪▪▪▪▪▪▪▪▪▪▪▪▪▪	▪▪▪▪▪▪▪▪▪▪▪▪▪▪▪▪▪▪▪▪▪▪▪▪▪▪▪▪▪▪▪▪▪▪▪▪▪▪▪▪▪▪▪▪▪▪▪▪▪
▪▪▪▪▪▪▪▪▪▪▪▪▪▪▪▪▪▪▪▪▪▪	▪▪▪▪▪▪▪▪▪▪▪ ▪▪▪▪▪▪▪▪▪▪▪▪▪▪▪▪▪▪▪▪▪▪▪▪▪▪▪▪▪▪▪▪▪▪▪▪▪▪▪▪▪▪▪▪▪▪▪▪▪▪▪▪▪▪▪▪▪▪▪▪▪▪▪▪▪▪▪▪▪▪▪▪▪▪▪▪▪▪▪▪▪▪▪▪▪▪▪▪	▪▪▪▪▪▪▪▪▪▪▪▪▪▪▪▪▪▪▪▪▪▪▪▪▪▪▪▪▪▪ ▪▪▪▪▪▪▪▪▪▪▪▪▪▪▪▪▪▪▪▪▪▪▪▪▪▪▪▪▪▪ ▪▪▪▪▪▪▪▪▪▪▪▪▪▪▪▪▪▪▪▪▪▪▪▪▪▪▪▪▪▪▪▪▪▪▪▪▪▪▪▪▪▪▪▪▪▪▪▪▪▪▪▪▪▪▪▪▪▪▪▪▪▪▪▪▪▪▪▪▪▪▪▪▪▪▪▪▪▪▪▪▪▪▪▪▪▪▪▪	▪▪▪▪▪▪▪▪▪▪▪▪▪▪▪▪▪▪▪▪▪▪ ▪▪▪▪▪▪▪▪▪▪▪▪▪▪▪▪▪▪▪▪▪▪	▪▪▪▪▪▪▪▪▪▪▪▪▪▪▪▪▪▪▪▪▪▪▪▪▪▪▪▪▪▪▪▪▪▪▪▪▪▪▪▪▪▪▪▪▪▪▪▪▪
▪▪▪▪▪▪▪▪▪▪▪▪▪▪▪▪▪▪▪▪▪▪	▪▪▪▪▪▪▪▪▪▪▪ ▪▪▪▪▪▪▪▪▪▪▪▪▪▪▪▪▪▪▪▪▪▪▪▪▪▪▪▪▪▪▪▪▪▪▪▪▪▪▪▪▪▪▪▪▪▪▪▪▪▪▪▪▪▪▪▪▪▪▪▪▪▪▪▪▪▪▪▪▪▪▪▪▪▪▪▪▪▪▪▪▪▪▪▪▪▪▪▪	▪▪▪▪▪▪▪▪▪▪▪▪▪▪▪▪▪▪▪▪▪▪▪▪▪▪▪▪▪▪ ▪▪▪▪▪▪▪▪▪▪▪▪▪▪▪▪▪▪▪▪▪▪▪▪▪▪▪▪▪▪ ▪▪▪▪▪▪▪▪▪▪▪▪▪▪▪▪▪▪▪▪▪▪▪▪▪▪▪▪▪▪▪▪▪▪▪▪▪▪▪▪▪▪▪▪▪▪▪▪▪▪▪▪▪▪▪▪▪▪▪▪▪▪▪▪▪▪▪▪▪▪▪▪▪▪▪▪▪▪▪▪▪▪▪▪▪▪▪▪	▪▪▪▪▪▪▪▪▪▪▪▪▪▪▪▪▪▪▪▪▪▪ ▪▪▪▪▪▪▪▪▪▪▪▪▪▪▪▪▪▪▪▪▪▪	▪▪▪▪▪▪▪▪▪▪▪▪▪▪▪▪▪▪▪▪▪▪▪▪▪▪▪▪▪▪▪▪▪▪▪▪▪▪▪▪▪▪▪▪▪▪▪▪▪
▪▪▪▪▪▪▪▪▪▪▪▪▪▪▪▪▪▪▪▪▪▪	▪▪▪▪▪▪▪▪▪▪▪ ▪▪▪▪▪▪▪▪▪▪▪▪▪▪▪▪▪▪▪▪▪▪▪▪▪▪▪▪▪▪▪▪▪▪▪▪▪▪▪▪▪▪▪▪▪▪▪▪▪▪▪▪▪▪▪▪▪▪▪▪▪▪▪▪▪▪▪▪▪▪▪▪▪▪▪▪▪▪▪▪▪▪▪▪▪▪▪▪	▪▪▪▪▪▪▪▪▪▪▪▪▪▪▪▪▪▪▪▪▪▪▪▪▪▪▪▪▪▪ ▪▪▪▪▪▪▪▪▪▪▪▪▪▪▪▪▪▪▪▪▪▪▪▪▪▪▪▪▪▪ ▪▪▪▪▪▪▪▪▪▪▪▪▪▪▪▪▪▪▪▪▪▪▪▪▪▪▪▪▪▪▪▪▪▪▪▪▪▪▪▪▪▪▪▪▪▪▪▪▪▪▪▪▪▪▪▪▪▪▪▪▪▪▪▪▪▪▪▪▪▪▪▪▪▪▪▪▪▪▪▪▪▪▪▪▪▪▪▪	▪▪▪▪▪▪▪▪▪▪▪▪▪▪▪▪▪▪▪▪▪▪ ▪▪▪▪▪▪▪▪▪▪▪▪▪▪▪▪▪▪▪▪▪▪	▪▪▪▪▪▪▪▪▪▪▪▪▪▪▪▪▪▪▪▪▪▪▪▪▪▪▪▪▪▪▪▪▪▪▪▪▪▪▪▪▪▪▪▪▪▪▪▪▪
▪▪▪▪▪▪▪▪▪▪▪▪▪▪▪▪▪▪▪▪▪▪	▪▪▪▪▪▪▪▪▪▪▪ ▪▪▪▪▪▪▪▪▪▪▪▪▪▪▪▪▪▪▪▪▪▪▪▪▪▪▪▪▪▪▪▪▪▪▪▪▪▪▪▪▪▪▪▪▪▪▪▪▪▪▪▪▪▪▪▪▪▪▪▪▪▪▪▪▪▪▪▪▪▪▪▪▪▪▪▪▪▪▪▪▪▪▪▪▪▪▪▪	▪▪▪▪▪▪▪▪▪▪▪▪▪▪▪▪▪▪▪▪▪▪▪▪▪▪▪▪▪▪ ▪▪▪▪▪▪▪▪▪▪▪▪▪▪▪▪▪▪▪▪▪▪▪▪▪▪▪▪▪▪ ▪▪▪▪▪▪▪▪▪▪▪▪▪▪▪▪▪▪▪▪▪▪▪▪▪▪▪▪▪▪▪▪▪▪▪▪▪▪▪▪▪▪▪▪▪▪▪▪▪▪▪▪▪▪▪▪▪▪▪▪▪▪▪▪▪▪▪▪▪▪▪▪▪▪▪▪▪▪▪▪▪▪▪▪▪▪▪▪	▪▪▪▪▪▪▪▪▪▪▪▪▪▪▪▪▪▪▪▪▪▪ ▪▪▪▪▪▪▪▪▪▪▪▪▪▪▪▪▪▪▪▪▪▪	▪▪▪▪▪▪▪▪▪▪▪▪▪▪▪▪▪▪▪▪▪▪▪▪▪▪▪▪▪▪▪▪▪▪▪▪▪▪▪▪▪▪▪▪▪▪▪▪▪
▪▪▪▪▪▪▪▪▪▪▪▪▪▪▪▪▪▪▪▪▪▪	▪▪▪▪▪▪▪▪▪▪▪ ▪▪▪▪▪▪▪▪▪▪▪▪▪▪▪▪▪▪▪▪▪▪▪▪▪▪▪▪▪▪▪▪▪▪▪▪▪▪▪▪▪▪▪▪▪▪▪▪▪▪▪▪▪▪▪▪▪▪▪▪▪▪▪▪▪▪▪▪▪▪▪▪▪▪▪▪▪▪▪▪▪▪▪▪▪▪▪▪	▪▪▪▪▪▪▪▪▪▪▪▪▪▪▪▪▪▪▪▪▪▪▪▪▪▪▪▪▪▪ ▪▪▪▪▪▪▪▪▪▪▪▪▪▪▪▪▪▪▪▪▪▪▪▪▪▪▪▪▪▪ ▪▪▪▪▪▪▪▪▪▪▪▪▪▪▪▪▪▪▪▪▪▪▪▪▪▪▪▪▪▪▪▪▪▪▪▪▪▪▪▪▪▪▪▪▪▪▪▪▪▪▪▪▪▪▪▪▪▪▪▪▪▪▪▪▪▪▪▪▪▪▪▪▪▪▪▪▪▪▪▪▪▪▪▪▪▪▪▪	▪▪▪▪▪▪▪▪▪▪▪▪▪▪▪▪▪▪▪▪▪▪ ▪▪▪▪▪▪▪▪▪▪▪▪▪▪▪▪▪▪▪▪▪▪	▪▪▪▪▪▪▪▪▪▪▪▪▪▪▪▪▪▪▪▪▪▪▪▪▪▪▪▪▪▪▪▪▪▪▪▪▪▪▪▪▪▪▪▪▪▪▪▪▪
▪▪▪▪▪▪▪▪▪▪▪▪▪▪▪▪▪▪▪▪▪▪	▪▪▪▪▪▪▪▪▪▪▪ ▪▪▪▪▪▪▪▪▪▪▪▪▪▪▪▪▪▪▪▪▪▪▪▪▪▪▪▪▪▪▪▪▪▪▪▪▪▪▪▪▪▪▪▪▪▪▪▪▪▪▪▪▪▪▪▪▪▪▪▪▪▪▪▪▪▪▪▪▪▪▪▪▪▪▪▪▪▪▪▪▪▪▪▪▪▪▪▪	▪▪▪▪▪▪▪▪▪▪▪▪▪▪▪▪▪▪▪▪▪▪▪▪▪▪▪▪▪▪ ▪▪▪▪▪▪▪▪▪▪▪▪▪▪▪▪▪▪▪▪▪▪▪▪▪▪▪▪▪▪ ▪▪▪▪▪▪▪▪▪▪▪▪▪▪▪▪▪▪▪▪▪▪▪▪▪▪▪▪▪▪▪▪▪▪▪▪▪▪▪▪▪▪▪▪▪▪▪▪▪▪▪▪▪▪▪▪▪▪▪▪▪▪▪▪▪▪▪▪▪▪▪▪▪▪▪▪▪▪▪▪▪▪▪▪▪▪▪▪	▪▪▪▪▪▪▪▪▪▪▪▪▪▪▪▪▪▪▪▪▪▪ ▪▪▪▪▪▪▪▪▪▪▪▪▪▪▪▪▪▪▪▪▪▪	▪▪▪▪▪▪▪▪▪▪▪▪▪▪▪▪▪▪▪▪▪▪▪▪▪▪▪▪▪▪▪▪▪▪▪▪▪▪▪▪▪▪▪▪▪▪▪▪▪
▪▪▪▪▪▪▪▪▪▪▪▪▪▪▪▪▪▪▪▪▪▪	▪▪▪▪▪▪▪▪▪▪▪ ▪▪▪▪▪▪▪▪▪▪▪▪▪▪▪▪▪▪▪▪▪▪▪▪▪▪▪▪▪▪▪▪▪▪▪▪▪▪▪▪▪▪▪▪▪▪▪▪▪▪▪▪▪▪▪▪▪▪▪▪▪▪▪▪▪▪▪▪▪▪▪▪▪▪▪▪▪▪▪▪▪▪▪▪▪▪▪▪	▪▪▪▪▪▪▪▪▪▪▪▪▪▪▪▪▪▪▪▪▪▪▪▪▪▪▪▪▪▪ ▪▪▪▪▪▪▪▪▪▪▪▪▪▪▪▪▪▪▪▪▪▪▪▪▪▪▪▪▪▪ ▪▪▪▪▪▪▪▪▪▪▪▪▪▪▪▪▪▪▪▪▪▪▪▪▪▪▪▪▪▪▪▪▪▪▪▪▪▪▪▪▪▪▪▪▪▪▪▪▪▪▪▪▪▪▪▪▪▪▪▪▪▪▪▪▪▪▪▪▪▪▪▪▪▪▪▪▪▪▪▪▪▪▪▪▪▪▪▪	▪▪▪▪▪▪▪▪▪▪▪▪▪▪▪▪▪▪▪▪▪▪ ▪▪▪▪▪▪▪▪▪▪▪▪▪▪▪▪▪▪▪▪▪▪	▪▪▪▪▪▪▪▪▪▪▪▪▪▪▪▪▪▪▪▪▪▪▪▪▪▪▪▪▪▪▪▪▪▪▪▪▪▪▪▪▪▪▪▪▪▪▪▪▪
▪▪▪▪▪▪▪▪▪▪▪▪▪▪▪▪▪▪▪▪▪▪	▪▪▪▪▪▪▪▪▪▪▪ ▪▪▪▪▪▪▪▪▪▪▪▪▪▪▪▪▪▪▪▪▪▪▪▪▪▪▪▪▪▪▪▪▪▪▪▪▪▪▪▪▪▪▪▪▪▪▪▪▪▪▪▪▪▪▪▪▪▪▪▪▪▪▪▪▪▪▪▪▪▪▪▪▪▪▪▪▪▪▪▪▪▪▪▪▪▪▪▪	▪▪▪▪▪▪▪▪▪▪▪▪▪▪▪▪▪▪▪▪▪▪▪▪▪▪▪▪▪▪ ▪▪▪▪▪▪▪▪▪▪▪▪▪▪▪▪▪▪▪▪▪▪▪▪▪▪▪▪▪▪ ▪▪▪▪▪▪▪▪▪▪▪▪▪▪▪▪▪▪▪▪▪▪▪▪▪▪▪▪▪▪▪▪▪▪▪▪▪▪▪▪▪▪▪▪▪▪▪▪▪▪▪▪▪▪▪▪▪▪▪▪▪▪▪▪▪▪▪▪▪▪▪▪▪▪▪▪▪▪▪▪▪▪▪▪▪▪▪▪	▪▪▪▪▪▪▪▪▪▪▪▪▪▪▪▪▪▪▪▪▪▪ ▪▪▪▪▪▪▪▪▪▪▪▪▪▪▪▪▪▪▪▪▪▪	▪▪▪▪▪▪▪▪▪▪▪▪▪▪▪▪▪▪▪▪▪▪▪▪▪▪▪▪▪▪▪▪▪▪▪▪▪▪▪▪▪▪▪▪▪▪▪▪▪
▪▪▪▪▪▪▪▪▪▪▪▪▪▪▪▪▪▪▪▪▪▪	▪▪▪▪▪▪▪▪▪▪▪ ▪▪▪▪▪▪▪▪▪▪▪▪▪▪▪▪▪▪▪▪▪▪▪▪▪▪▪▪▪▪▪▪▪▪▪▪▪▪▪▪▪▪▪▪▪▪▪▪▪▪▪▪▪▪▪▪▪▪▪▪▪▪▪▪▪▪▪▪▪▪▪▪▪▪▪▪▪▪▪▪▪▪▪▪▪▪▪▪	▪▪▪▪▪▪▪▪▪▪▪▪▪▪▪▪▪▪▪▪▪▪▪▪▪▪▪▪▪▪ ▪▪▪▪▪▪▪▪▪▪▪▪▪▪▪▪▪▪▪▪▪▪▪▪▪▪▪▪▪▪ ▪▪▪▪▪▪▪▪▪▪▪▪▪▪▪▪▪▪▪▪▪▪▪▪▪▪▪▪▪▪▪▪▪▪▪▪▪▪▪▪▪▪▪▪▪▪▪▪▪▪▪▪▪▪▪▪▪▪▪▪▪▪▪▪▪▪▪▪▪▪▪▪▪▪▪▪▪▪▪▪▪▪▪▪▪▪▪▪	▪▪▪▪▪▪▪▪▪▪▪▪▪▪▪▪▪▪▪▪▪▪ ▪▪▪▪▪▪▪▪▪▪▪▪▪▪▪▪▪▪▪▪▪▪	▪▪▪▪▪▪▪▪▪▪▪▪▪▪▪▪▪▪▪▪▪▪▪▪▪▪▪▪▪▪▪▪▪▪▪▪▪▪▪▪▪▪▪▪▪▪▪▪▪
▪▪▪▪▪▪▪▪▪▪▪▪▪▪▪▪▪▪▪▪▪▪	▪▪▪▪▪▪▪▪▪▪▪ ▪▪▪▪▪▪▪▪▪▪▪▪▪▪▪▪▪▪▪▪▪▪▪▪▪▪▪▪▪▪▪▪▪▪▪▪▪▪▪▪▪▪▪▪▪▪▪▪▪▪▪▪▪▪▪▪▪▪▪▪▪▪▪▪▪▪▪▪▪▪▪▪▪▪▪▪▪▪▪▪▪▪▪▪▪▪▪▪	▪▪▪▪▪▪▪▪▪▪▪▪▪▪▪▪▪▪▪▪▪▪▪▪▪▪▪▪▪▪ ▪▪▪▪▪▪▪▪▪▪▪▪▪▪▪▪▪▪▪▪▪▪▪▪▪▪▪▪▪▪ ▪▪▪▪▪▪▪▪▪▪▪▪▪▪▪▪▪▪▪▪▪▪▪▪▪▪▪▪▪▪▪▪▪▪▪▪▪▪▪▪▪▪▪▪▪▪▪▪▪▪▪▪▪▪▪▪▪▪▪▪▪▪▪▪▪▪▪▪▪▪▪▪▪▪▪▪▪▪▪▪▪▪▪▪▪▪▪▪	▪▪▪▪▪▪▪▪▪▪▪▪▪▪▪▪▪▪▪▪▪▪ ▪▪▪▪▪▪▪▪▪▪▪▪▪▪▪▪▪▪▪▪▪▪	▪▪▪▪▪▪▪▪▪▪▪▪▪▪▪▪▪▪▪▪▪▪▪▪▪▪▪▪▪▪▪▪▪▪▪▪▪▪▪▪▪▪▪▪▪▪▪▪▪
▪▪▪▪▪▪▪▪▪▪▪▪▪▪▪▪▪▪▪▪▪▪	▪▪▪▪▪▪▪▪▪▪▪ ▪▪▪▪▪▪▪▪▪▪▪▪▪▪▪▪▪▪▪▪▪▪▪▪▪▪▪▪▪▪▪▪▪▪▪▪▪▪▪▪▪▪▪▪▪▪▪▪▪▪▪▪▪▪▪▪▪▪▪▪▪▪▪▪▪▪▪▪▪▪▪▪▪▪▪▪▪▪▪▪▪▪▪▪▪▪▪▪	▪▪▪▪▪▪▪▪▪▪▪▪▪▪▪▪▪▪▪▪▪▪▪▪▪▪▪▪▪▪ ▪▪▪▪▪▪▪▪▪▪▪▪▪▪▪▪▪▪▪▪▪▪▪▪▪▪▪▪▪▪ ▪▪▪▪▪▪▪▪▪▪▪▪▪▪▪▪▪▪▪▪▪▪▪▪▪▪▪▪▪▪▪▪▪▪▪▪▪▪▪▪▪▪▪▪▪▪▪▪▪▪▪▪▪▪▪▪▪▪▪▪▪▪▪▪▪▪▪▪▪▪▪▪▪▪▪▪▪▪▪▪▪▪▪▪▪▪▪▪	▪▪▪▪▪▪▪▪▪▪▪▪▪▪▪▪▪▪▪▪▪▪ ▪▪▪▪▪▪▪▪▪▪▪▪▪▪▪▪▪▪▪▪▪▪	▪▪▪▪▪▪▪▪▪▪▪▪▪▪▪▪▪▪▪▪▪▪▪▪▪▪▪▪▪▪▪▪▪▪▪▪▪▪▪▪▪▪▪▪▪▪▪▪▪
▪▪▪▪▪▪▪▪▪▪▪▪▪▪▪▪▪▪▪▪▪▪	▪▪▪▪▪▪▪▪▪▪▪ ▪▪▪▪▪▪▪▪▪▪▪▪▪▪▪▪▪▪▪▪▪▪▪▪▪▪▪▪▪▪▪▪▪▪▪▪▪▪▪▪▪▪▪▪▪▪▪▪▪▪▪▪▪▪▪▪▪▪▪▪▪▪▪▪▪▪▪▪▪▪▪▪▪▪▪▪▪▪▪▪▪▪▪▪▪▪▪▪	▪▪▪▪▪▪▪▪▪▪▪▪▪▪▪▪▪▪▪▪▪▪▪▪▪▪▪▪▪▪ ▪▪▪▪▪▪▪▪▪▪▪▪▪▪▪▪▪▪▪▪▪▪▪▪▪▪▪▪▪▪ ▪▪▪▪▪▪▪▪▪▪▪▪▪▪▪▪▪▪▪▪▪▪▪▪▪▪▪▪▪▪▪▪▪▪▪▪▪▪▪▪▪▪▪▪▪▪▪▪▪▪▪▪▪▪▪▪▪▪▪▪▪▪▪▪▪▪▪▪▪▪▪▪▪▪▪▪▪▪▪▪▪▪▪▪▪▪▪▪	▪▪▪▪▪▪▪▪▪▪▪▪▪▪▪▪▪▪▪▪▪▪ ▪▪▪▪▪▪▪▪▪▪▪▪▪▪▪▪▪▪▪▪▪▪	▪▪▪▪▪▪▪▪▪▪▪▪▪▪▪▪▪▪▪▪▪▪▪▪▪▪▪▪▪▪▪▪▪▪▪▪▪▪▪▪▪▪▪▪▪▪▪▪▪
▪▪▪▪▪▪▪▪▪▪▪▪▪▪▪▪▪▪▪▪▪▪	▪▪▪▪▪▪▪▪▪▪▪ ▪▪▪▪▪▪▪▪▪▪▪▪▪▪▪▪▪▪▪▪▪▪▪▪▪▪▪▪▪▪▪▪▪▪▪▪▪▪▪▪▪▪▪▪▪▪▪▪▪▪▪▪▪▪▪▪▪▪▪▪▪▪▪▪▪▪▪▪▪▪▪▪▪▪▪▪▪▪▪▪▪▪▪▪▪▪▪▪	▪▪▪▪▪▪▪▪▪▪▪▪▪▪▪▪▪▪▪▪▪▪▪▪▪▪▪▪▪▪ ▪▪▪▪▪▪▪▪▪▪▪▪▪▪▪▪▪▪▪▪▪▪▪▪▪▪▪▪▪▪ ▪▪▪▪▪▪▪▪▪▪▪▪▪▪▪▪▪▪▪▪▪▪▪▪▪▪▪▪▪▪▪▪▪▪▪▪▪▪▪▪▪▪▪▪▪▪▪▪▪▪▪▪▪▪▪▪▪▪▪▪▪▪▪▪▪▪▪▪▪▪▪▪▪▪▪▪▪▪▪▪▪▪▪▪▪▪▪▪	▪▪▪▪▪▪▪▪▪▪▪▪▪▪▪▪▪▪▪▪▪▪ ▪▪▪▪▪▪▪▪▪▪▪▪▪▪▪▪▪▪▪▪▪▪	▪▪▪▪▪▪▪▪▪▪▪▪▪▪▪▪▪▪▪▪▪▪▪▪▪▪▪▪▪▪▪▪▪▪▪▪▪▪▪▪▪▪▪▪▪▪▪▪▪
▪▪▪▪▪▪▪▪▪▪▪▪▪▪▪▪▪▪▪▪▪▪	▪▪▪▪▪▪▪▪▪▪▪ ▪▪▪▪▪▪▪▪▪▪▪▪▪▪▪▪▪▪▪▪▪▪▪▪▪▪▪▪▪▪▪▪▪▪▪▪▪▪▪▪▪▪▪▪▪▪▪▪▪▪▪▪▪▪▪▪▪▪▪▪▪▪▪▪▪▪▪▪▪▪▪▪▪▪▪▪▪▪▪▪▪▪▪▪▪▪▪▪	▪▪▪▪▪▪▪▪▪▪▪▪▪▪▪▪▪▪▪▪▪▪▪▪▪▪▪▪▪▪ ▪▪▪▪▪▪▪▪▪▪▪▪▪▪▪▪▪▪▪▪▪▪▪▪▪▪▪▪▪▪ ▪▪▪▪▪▪▪▪▪▪▪▪▪▪▪▪▪▪▪▪▪▪▪▪▪▪▪▪▪▪▪▪▪▪▪▪▪▪▪▪▪▪▪▪▪▪▪▪▪▪▪▪▪▪▪▪▪▪▪▪▪▪▪▪▪▪▪▪▪▪▪▪▪▪▪▪▪▪▪▪▪▪▪▪▪▪▪▪	▪▪▪▪▪▪▪▪▪▪▪▪▪▪▪▪▪▪▪▪▪▪ ▪▪▪▪▪▪▪▪▪▪▪▪▪▪▪▪▪▪▪▪▪▪	▪▪▪▪▪▪▪▪▪▪▪▪▪▪▪▪▪▪▪▪▪▪▪▪▪▪▪▪▪▪▪▪▪▪▪▪▪▪▪▪▪▪▪▪▪▪▪▪▪
▪▪▪▪▪▪▪▪▪▪▪▪▪▪▪▪▪▪▪▪▪▪	▪▪▪▪▪▪▪▪▪▪▪ ▪▪▪▪▪▪▪▪▪▪▪▪▪▪▪▪▪▪▪▪▪▪▪▪▪▪▪▪▪▪▪▪▪▪▪▪▪▪▪▪▪▪▪▪▪▪▪▪▪▪▪▪▪▪▪▪▪▪▪▪▪▪▪▪▪▪▪▪▪▪▪▪▪▪▪▪▪▪▪▪▪▪▪▪▪▪▪▪	▪▪▪▪▪▪▪▪▪▪▪▪▪▪▪▪▪▪▪▪▪▪▪▪▪▪▪▪▪▪ ▪▪▪▪▪▪▪▪▪▪▪▪▪▪▪▪▪▪▪▪▪▪▪▪▪▪▪▪▪▪ ▪▪▪▪▪▪▪▪▪▪▪▪▪▪▪▪▪▪▪▪▪▪▪▪▪▪▪▪▪▪▪▪▪▪▪▪▪▪▪▪▪▪▪▪▪▪▪▪▪▪▪▪▪▪▪▪▪▪▪▪▪▪▪▪▪▪▪▪▪▪▪▪▪▪▪▪▪▪▪▪▪▪▪▪▪▪▪▪	▪▪▪▪▪▪▪▪▪▪▪▪▪▪▪▪▪▪▪▪▪▪ ▪▪▪▪▪▪▪▪▪▪▪▪▪▪▪▪▪▪▪▪▪▪	▪▪▪▪▪▪▪▪▪▪▪▪▪▪▪▪▪▪▪▪▪▪▪▪▪▪▪▪▪▪▪▪▪▪▪▪▪▪▪▪▪▪▪▪▪▪▪▪▪
▪▪▪▪▪▪▪▪▪▪▪▪▪▪▪▪▪▪▪▪▪▪	▪▪▪▪▪▪▪▪▪▪▪ ▪▪▪▪▪▪▪▪▪▪▪▪▪▪▪▪▪▪▪▪▪▪▪▪▪▪▪▪▪▪▪▪▪▪▪▪▪▪▪▪▪▪▪▪▪▪▪▪▪▪▪▪▪▪▪▪▪▪▪▪▪▪▪▪▪▪▪▪▪▪▪▪▪▪▪▪▪▪▪▪▪▪▪▪▪▪▪▪	▪▪▪▪▪▪▪▪▪▪▪▪▪▪▪▪▪▪▪▪▪▪▪▪▪▪▪▪▪▪ ▪▪▪▪▪▪▪▪▪▪▪▪▪▪▪▪▪▪▪▪▪▪▪▪▪▪▪▪▪▪ ▪▪▪▪▪▪▪▪▪▪▪▪▪▪▪▪▪▪▪▪▪▪▪▪▪▪▪▪▪▪▪▪▪▪▪▪▪▪▪▪▪▪▪▪▪▪▪▪▪▪▪▪▪▪▪▪▪▪▪▪▪▪▪▪▪▪▪▪▪▪▪▪▪▪▪▪▪▪▪▪▪▪▪▪▪▪▪▪	▪▪▪▪▪▪▪▪▪▪▪▪▪▪▪▪▪▪▪▪▪▪ ▪▪▪▪▪▪▪▪▪▪▪▪▪▪▪▪▪▪▪▪▪▪	▪▪▪▪▪▪▪▪▪▪▪▪▪▪▪▪▪▪▪▪▪▪▪▪▪▪▪▪▪▪▪▪▪▪▪▪▪▪▪▪▪▪▪▪▪▪▪▪▪
▪▪▪▪▪▪▪▪▪▪▪▪▪▪▪▪▪▪▪▪▪▪	▪▪▪▪▪▪▪▪▪▪▪ ▪▪▪▪▪▪▪▪▪▪▪▪▪▪▪▪▪▪▪▪▪▪▪▪▪▪▪▪▪▪▪▪▪▪▪▪▪▪▪▪▪▪▪▪▪▪▪▪▪▪▪▪▪▪▪▪▪▪▪▪▪▪▪▪▪▪▪▪▪▪▪▪▪▪▪▪▪▪▪▪▪▪▪▪▪▪▪▪	▪▪▪▪▪▪▪▪▪▪▪▪▪▪▪▪▪▪▪▪▪▪▪▪▪▪▪▪▪▪ ▪▪▪▪▪▪▪▪▪▪▪▪▪▪▪▪▪▪▪▪▪▪▪▪▪▪▪▪▪▪ ▪▪▪▪▪▪▪▪▪▪▪▪▪▪▪▪▪▪▪▪▪▪▪▪▪▪▪▪▪▪▪▪▪▪▪▪▪▪▪▪▪▪▪▪▪▪▪▪▪▪▪▪▪▪▪▪▪▪▪▪▪▪▪▪▪▪▪▪▪▪▪▪▪▪▪▪▪▪▪▪▪▪▪▪▪▪▪▪	▪▪▪▪▪▪▪▪▪▪▪▪▪▪▪▪▪▪▪▪▪▪ ▪▪▪▪▪▪▪▪▪▪▪▪▪▪▪▪▪▪▪▪▪▪	▪▪▪▪▪▪▪▪▪▪▪▪▪▪▪▪▪▪▪▪▪▪▪▪▪▪▪▪▪▪▪▪▪▪▪▪▪▪▪▪▪▪▪▪▪▪▪▪▪
▪▪▪▪▪▪▪▪▪▪▪▪▪▪▪▪▪▪▪▪▪▪	▪▪▪▪▪▪▪▪▪▪▪ ▪▪▪▪▪▪▪▪▪▪▪▪▪▪▪▪▪▪▪▪▪▪▪▪▪▪▪▪▪▪▪▪▪▪▪▪▪▪▪▪▪▪▪▪▪▪▪▪▪▪▪▪▪▪▪▪▪▪▪▪▪▪▪▪▪▪▪▪▪▪▪▪▪▪▪▪▪▪▪▪▪▪▪▪▪▪▪▪	▪▪▪▪▪▪▪▪▪▪▪▪▪▪▪▪▪▪▪▪▪▪▪▪▪▪▪▪▪▪ ▪▪▪▪▪▪▪▪▪▪▪▪▪▪▪▪▪▪▪▪▪▪▪▪▪▪▪▪▪▪ ▪▪▪▪▪▪▪▪▪▪▪▪▪▪▪▪▪▪▪▪▪▪▪▪▪▪▪▪▪▪▪▪▪▪▪▪▪▪▪▪▪▪▪▪▪▪▪▪▪▪▪▪▪▪▪▪▪▪▪▪▪▪▪▪▪▪▪▪▪▪▪▪▪▪▪▪▪▪▪▪▪▪▪▪▪▪▪▪	▪▪▪▪▪▪▪▪▪▪▪▪▪▪▪▪▪▪▪▪▪▪ ▪▪▪▪▪▪▪▪▪▪▪▪▪▪▪▪▪▪▪▪▪▪	▪▪▪▪▪▪▪▪▪▪▪▪▪▪▪▪▪▪▪▪▪▪▪▪▪▪▪▪▪▪▪▪▪▪▪▪▪▪▪▪▪▪▪▪▪▪▪▪▪
▪▪▪▪▪▪▪▪▪▪▪▪▪▪▪▪▪▪▪▪▪▪	▪▪▪▪▪▪▪▪▪▪▪ ▪▪▪▪▪▪▪▪▪▪▪▪▪▪▪▪▪▪▪▪▪▪▪▪▪▪▪▪▪▪▪▪▪▪▪▪▪▪▪▪▪▪▪▪▪▪▪▪▪▪▪▪▪▪▪▪▪▪▪▪▪▪▪▪▪▪▪▪▪▪▪▪▪▪▪▪▪▪▪▪▪▪▪▪▪▪▪▪	▪▪▪▪▪▪▪▪▪▪▪▪▪▪▪▪▪▪▪▪▪▪▪▪▪▪▪▪▪▪ ▪▪▪▪▪▪▪▪▪▪▪▪▪▪▪▪▪▪▪▪▪▪▪▪▪▪▪▪▪▪ ▪▪▪▪▪▪▪▪▪▪▪▪▪▪▪▪▪▪▪▪▪▪▪▪▪▪▪▪▪▪▪▪▪▪▪▪▪▪▪▪▪▪▪▪▪▪▪▪▪▪▪▪▪▪▪▪▪▪▪▪▪▪▪▪▪▪▪▪▪▪▪▪▪▪▪▪▪▪▪▪▪▪▪▪▪▪▪▪	▪▪▪▪▪▪▪▪▪▪▪▪▪▪▪▪▪▪▪▪▪▪ ▪▪▪▪▪▪▪▪▪▪▪▪▪▪▪▪▪▪▪▪▪▪	▪▪▪▪▪▪▪▪▪▪▪▪▪▪▪▪▪▪▪▪▪▪▪▪▪▪▪▪▪▪▪▪▪▪▪▪▪▪▪▪▪▪▪▪▪▪▪▪▪
▪▪▪▪▪▪▪▪▪▪▪▪▪▪▪▪▪▪▪▪▪▪	▪▪▪▪▪▪▪▪▪▪▪ ▪▪▪▪▪▪▪▪▪▪▪▪▪▪▪▪▪▪▪▪▪▪▪▪▪▪▪▪▪▪▪▪▪▪▪▪▪▪▪▪▪▪▪▪▪▪▪▪▪▪▪▪▪▪▪▪▪▪▪▪▪▪▪▪▪▪▪▪▪▪▪▪▪▪▪▪▪▪▪▪▪▪▪▪▪▪▪▪	▪▪▪▪▪▪▪▪▪▪▪▪▪▪▪▪▪▪▪▪▪▪▪▪▪▪▪▪▪▪ ▪▪▪▪▪▪▪▪▪▪▪▪▪▪▪▪▪▪▪▪▪▪▪▪▪▪▪▪▪▪ ▪▪▪▪▪▪▪▪▪▪▪▪▪▪▪▪▪▪▪▪▪▪▪▪▪▪▪▪▪▪▪▪▪▪▪▪▪▪▪▪▪▪▪▪▪▪▪▪▪▪▪▪▪▪▪▪▪▪▪▪▪▪▪▪▪▪▪▪▪▪▪▪▪▪▪▪▪▪▪▪▪▪▪▪▪▪▪▪	▪▪▪▪▪▪▪▪▪▪▪▪▪▪▪▪▪▪▪▪▪▪ ▪▪▪▪▪▪▪▪▪▪▪▪▪▪▪▪▪▪▪▪▪▪	▪▪▪▪▪▪▪▪▪▪▪▪▪▪▪▪▪▪▪▪▪▪▪▪▪▪▪▪▪▪▪▪▪▪▪▪▪▪▪▪▪▪▪▪▪▪▪▪▪
▪▪▪▪▪▪▪▪▪▪▪▪▪▪▪▪▪▪▪▪▪▪	▪▪▪▪▪▪▪▪▪▪▪ ▪▪▪▪▪▪▪▪▪▪▪▪▪▪▪▪▪▪▪▪▪▪▪▪▪▪▪▪▪▪▪▪▪▪▪▪▪▪▪▪▪▪▪▪▪▪▪▪▪▪▪▪▪▪▪▪▪▪▪▪▪▪▪▪▪▪▪▪▪▪▪▪▪▪▪▪▪▪▪▪▪▪▪▪▪▪▪▪	▪▪▪▪▪▪▪▪▪▪▪▪▪▪▪▪▪▪▪▪▪▪▪▪▪▪▪▪▪▪ ▪▪▪▪▪▪▪▪▪▪▪▪▪▪▪▪▪▪▪▪▪▪▪▪▪▪▪▪▪▪ ▪▪▪▪▪▪▪▪▪▪▪▪▪▪▪▪▪▪▪▪▪▪▪▪▪▪▪▪▪▪▪▪▪▪▪▪▪▪▪▪▪▪▪▪▪▪▪▪▪▪▪▪▪▪▪▪▪▪▪▪▪▪▪▪▪▪▪▪▪▪▪▪▪▪▪▪▪▪▪▪▪▪▪▪▪▪▪▪	▪▪▪▪▪▪▪▪▪▪▪▪▪▪▪▪▪▪▪▪▪▪ ▪▪▪▪▪▪▪▪▪▪▪▪▪▪▪▪▪▪▪▪▪▪	▪▪▪▪▪▪▪▪▪▪▪▪▪▪▪▪▪▪▪▪▪▪▪▪▪▪▪▪▪▪▪▪▪▪▪▪▪▪▪▪▪▪▪▪▪▪▪▪▪
▪▪▪▪▪▪▪▪▪▪▪▪▪▪▪▪▪▪▪▪▪▪	▪▪▪▪▪▪▪▪▪▪▪ ▪▪▪▪▪▪▪▪▪▪▪▪▪▪▪▪▪▪▪▪▪▪▪▪▪▪▪▪▪▪▪▪▪▪▪▪▪▪▪▪▪▪▪▪▪▪▪▪▪▪▪▪▪▪▪▪▪▪▪▪▪▪▪▪▪▪▪▪▪▪▪▪▪▪▪▪▪▪▪▪▪▪▪▪▪▪▪▪	▪▪▪▪▪▪▪▪▪▪▪▪▪▪▪▪▪▪▪▪▪▪▪▪▪▪▪▪▪▪ ▪▪▪▪▪▪▪▪▪▪▪▪▪▪▪▪▪▪▪▪▪▪▪▪▪▪▪▪▪▪ ▪▪▪▪▪▪▪▪▪▪▪▪▪▪▪▪▪▪▪▪▪▪▪▪▪▪▪▪▪▪▪▪▪▪▪▪▪▪▪▪▪▪▪▪▪▪▪▪▪▪▪▪▪▪▪▪▪▪▪▪▪▪▪▪▪▪▪▪▪▪▪▪▪▪▪▪▪▪▪▪▪▪▪▪▪▪▪▪	▪▪▪▪▪▪▪▪▪▪▪▪▪▪▪▪▪▪▪▪▪▪ ▪▪▪▪▪▪▪▪▪▪▪▪▪▪▪▪▪▪▪▪▪▪	▪▪▪▪▪▪▪▪▪▪▪▪▪▪▪▪▪▪▪▪▪▪▪▪▪▪▪▪▪▪▪▪▪▪▪▪▪▪▪▪▪▪▪▪▪▪▪▪▪
▪▪▪▪▪▪▪▪▪▪▪▪▪▪▪▪▪▪▪▪▪▪	▪▪▪▪▪▪▪▪▪▪▪ ▪▪▪▪▪▪▪▪▪▪▪▪▪▪▪▪▪▪▪▪▪▪▪▪▪▪▪▪▪▪▪▪▪▪▪▪▪▪▪▪▪▪▪▪▪▪▪▪▪▪▪▪▪▪▪▪▪▪▪▪▪▪▪▪▪▪▪▪▪▪▪▪▪▪▪▪▪▪▪▪▪▪▪▪▪▪▪▪	▪▪▪▪▪▪▪▪▪▪▪▪▪▪▪▪▪▪▪▪▪▪▪▪▪▪▪▪▪▪ ▪▪▪▪▪▪▪▪▪▪▪▪▪▪▪▪▪▪▪▪▪▪▪▪▪▪▪▪▪▪ ▪▪▪▪▪▪▪▪▪▪▪▪▪▪▪▪▪▪▪▪▪▪▪▪▪▪▪▪▪▪▪▪▪▪▪▪▪▪▪▪▪▪▪▪▪▪▪▪▪▪▪▪▪▪▪▪▪▪▪▪▪▪▪▪▪▪▪▪▪▪▪▪▪▪▪▪▪▪▪▪▪▪▪▪▪▪▪▪	▪▪▪▪▪▪▪▪▪▪▪▪▪▪▪▪▪▪▪▪▪▪ ▪▪▪▪▪▪▪▪▪▪▪▪▪▪▪▪▪▪▪▪▪▪	▪▪▪▪▪▪▪▪▪▪▪▪▪▪▪▪▪▪▪▪▪▪▪▪▪▪▪▪▪▪▪▪▪▪▪▪▪▪▪▪▪▪▪▪▪▪▪▪▪
▪▪▪▪▪▪▪▪▪▪▪▪▪▪▪▪▪▪▪▪▪▪	▪▪▪▪▪▪▪▪▪▪▪ ▪▪▪▪▪▪▪▪▪▪▪▪▪▪▪▪▪▪▪▪▪▪▪▪▪▪▪▪▪▪▪▪▪▪▪▪▪▪▪▪▪▪▪▪▪▪▪▪▪▪▪▪▪▪▪▪▪▪▪▪▪▪▪▪▪▪▪▪▪▪▪▪▪▪▪▪▪▪▪▪▪▪▪▪▪▪▪▪	▪▪▪▪▪▪▪▪▪▪▪▪▪▪▪▪▪▪▪▪▪▪▪▪▪▪▪▪▪▪ ▪▪▪▪▪▪▪▪▪▪▪▪▪▪▪▪▪▪▪▪▪▪▪▪▪▪▪▪▪▪ ▪▪▪▪▪▪▪▪▪▪▪▪▪▪▪▪▪▪▪▪▪▪▪▪▪▪▪▪▪▪▪▪▪▪▪▪▪▪▪▪▪▪▪▪▪▪▪▪▪▪▪▪▪▪▪▪▪▪▪▪▪▪▪▪▪▪▪▪▪▪▪▪▪▪▪▪▪▪▪▪▪▪▪▪▪▪▪▪	▪▪▪▪▪▪▪▪▪▪▪▪▪▪▪▪▪▪▪▪▪▪ ▪▪▪▪▪▪▪▪▪▪▪▪▪▪▪▪▪▪▪▪▪▪	▪▪▪▪▪▪▪▪▪▪▪▪▪▪▪▪▪▪▪▪▪▪▪▪▪▪▪▪▪▪▪▪▪▪▪▪▪▪▪▪▪▪▪▪▪▪▪▪▪
▪▪▪▪▪▪▪▪▪▪▪▪▪▪▪▪▪▪▪▪▪▪	▪▪▪▪▪▪▪▪▪▪▪ ▪▪▪▪▪▪▪▪▪▪▪▪▪▪▪▪▪▪▪▪▪▪▪▪▪▪▪▪▪▪▪▪▪▪▪▪▪▪▪▪▪▪▪▪▪▪▪▪▪▪▪▪▪▪▪▪▪▪▪▪▪▪▪▪▪▪▪▪▪▪▪▪▪▪▪▪▪▪▪▪▪▪▪▪▪▪▪▪	▪▪▪▪▪▪▪▪▪▪▪▪▪▪▪▪▪▪▪▪▪▪▪▪▪▪▪▪▪▪ ▪▪▪▪▪▪▪▪▪▪▪▪▪▪▪▪▪▪▪▪▪▪▪▪▪▪▪▪▪▪ ▪▪▪▪▪▪▪▪▪▪▪▪▪▪▪▪▪▪▪▪▪▪▪▪▪▪▪▪▪▪▪▪▪▪▪▪▪▪▪▪▪▪▪▪▪▪▪▪▪▪▪▪▪▪▪▪▪▪▪▪▪▪▪▪▪▪▪▪▪▪▪▪▪▪▪▪▪▪▪▪▪▪▪▪▪▪▪▪	▪▪▪▪▪▪▪▪▪▪▪▪▪▪▪▪▪▪▪▪▪▪ ▪▪▪▪▪▪▪▪▪▪▪▪▪▪▪▪▪▪▪▪▪▪	▪▪▪▪▪▪▪▪▪▪▪▪▪▪▪▪▪▪▪▪▪▪▪▪▪▪▪▪▪▪▪▪▪▪▪▪▪▪▪▪▪▪▪▪▪▪▪▪▪
▪▪▪▪▪▪▪▪▪▪▪▪▪▪▪▪▪▪▪▪▪▪	▪▪▪▪▪▪▪▪▪▪▪ ▪▪▪▪▪▪▪▪▪▪▪▪▪▪▪▪▪▪▪▪▪▪▪▪▪▪▪▪▪▪▪▪▪▪▪▪▪▪▪▪▪▪▪▪▪▪▪▪▪▪▪▪▪▪▪▪▪▪▪▪▪▪▪▪▪▪▪▪▪▪▪▪▪▪▪▪▪▪▪▪▪▪▪▪▪▪▪▪	▪▪▪▪▪▪▪▪▪▪▪▪▪▪▪▪▪▪▪▪▪▪▪▪▪▪▪▪▪▪ ▪▪▪▪▪▪▪▪▪▪▪▪▪▪▪▪▪▪▪▪▪▪▪▪▪▪▪▪▪▪ ▪▪▪▪▪▪▪▪▪▪▪▪▪▪▪▪▪▪▪▪▪▪▪▪▪▪▪▪▪▪▪▪▪▪▪▪▪▪▪▪▪▪▪▪▪▪▪▪▪▪▪▪▪▪▪▪▪▪▪▪▪▪▪▪▪▪▪▪▪▪▪▪▪▪▪▪▪▪▪▪▪▪▪▪▪▪▪▪	▪▪▪▪▪▪▪▪▪▪▪▪▪▪▪▪▪▪▪▪▪▪ ▪▪▪▪▪▪▪▪▪▪▪▪▪▪▪▪▪▪▪▪▪▪	▪▪▪▪▪▪▪▪▪▪▪▪▪▪▪▪▪▪▪▪▪▪▪▪▪▪▪▪▪▪▪▪▪▪▪▪▪▪▪▪▪▪▪▪▪▪▪▪▪
▪▪▪▪▪▪▪▪▪▪▪▪▪▪▪▪▪▪▪▪▪▪	▪▪▪▪▪▪▪▪▪▪▪ ▪▪▪▪▪▪▪▪▪▪▪▪▪▪▪▪▪▪▪▪▪▪▪▪▪▪▪▪▪▪▪▪▪▪▪▪▪▪▪▪▪▪▪▪▪▪▪▪▪▪▪▪▪▪▪▪▪▪▪▪▪▪▪▪▪▪▪▪▪▪▪▪▪▪▪▪▪▪▪▪▪▪▪▪▪▪▪▪	▪▪▪▪▪▪▪▪▪▪▪▪▪▪▪▪▪▪▪▪▪▪▪▪▪▪▪▪▪▪ ▪▪▪▪▪▪▪▪▪▪▪▪▪▪▪▪▪▪▪▪▪▪▪▪▪▪▪▪▪▪ ▪▪▪▪▪▪▪▪▪▪▪▪▪▪▪▪▪▪▪▪▪▪▪▪▪▪▪▪▪▪▪▪▪▪▪▪▪▪▪▪▪▪▪▪▪▪▪▪▪▪▪▪▪▪▪▪▪▪▪▪▪▪▪▪▪▪▪▪▪▪▪▪▪▪▪▪▪▪▪▪▪▪▪▪▪▪▪▪	▪▪▪▪▪▪▪▪▪▪▪▪▪▪▪▪▪▪▪▪▪▪ ▪▪▪▪▪▪▪▪▪▪▪▪▪▪▪▪▪▪▪▪▪▪	▪▪▪▪▪▪▪▪▪▪▪▪▪▪▪▪▪▪▪▪▪▪▪▪▪▪▪▪▪▪▪▪▪▪▪▪▪▪▪▪▪▪▪▪▪▪▪▪▪
▪▪▪▪▪▪▪▪▪▪▪▪▪▪▪▪▪▪▪▪▪▪	▪▪▪▪▪▪▪▪▪▪▪ ▪▪▪▪▪▪▪▪▪▪▪▪▪▪▪▪▪▪▪▪▪▪▪▪▪▪▪▪▪▪▪▪▪▪▪▪▪▪▪▪▪▪▪▪▪▪▪▪▪▪▪▪▪▪▪▪▪▪▪▪▪▪▪▪▪▪▪▪▪▪▪▪▪▪▪▪▪▪▪▪▪▪▪▪▪▪▪▪	▪▪▪▪▪▪▪▪▪▪▪▪▪▪▪▪▪▪▪▪▪▪▪▪▪▪▪▪▪▪ ▪▪▪▪▪▪▪▪▪▪▪▪▪▪▪▪▪▪▪▪▪▪▪▪▪▪▪▪▪▪ ▪▪▪▪▪▪▪▪▪▪▪▪▪▪▪▪▪▪▪▪▪▪▪▪▪▪▪▪▪▪▪▪▪▪▪▪▪▪▪▪▪▪▪▪▪▪▪▪▪▪▪▪▪▪▪▪▪▪▪▪▪▪▪▪▪▪▪▪▪▪▪▪▪▪▪▪▪▪▪▪▪▪▪▪▪▪▪▪	▪▪▪▪▪▪▪▪▪▪▪▪▪▪▪▪▪▪▪▪▪▪ ▪▪▪▪▪▪▪▪▪▪▪▪▪▪▪▪▪▪▪▪▪▪	▪▪▪▪▪▪▪▪▪▪▪▪▪▪▪▪▪▪▪▪▪▪▪▪▪▪▪▪▪▪▪▪▪▪▪▪▪▪▪▪▪▪▪▪▪▪▪▪▪
▪▪▪▪▪▪▪▪▪▪▪▪▪▪▪▪▪▪▪▪▪▪	▪▪▪▪▪▪▪▪▪▪▪ ▪▪▪▪▪▪▪▪▪▪▪▪▪▪▪▪▪▪▪▪▪▪▪▪▪▪▪▪▪▪▪▪▪▪▪▪▪▪▪▪▪▪▪▪▪▪▪▪▪▪▪▪▪▪▪▪▪▪▪▪▪▪▪▪▪▪▪▪▪▪▪▪▪▪▪▪▪▪▪▪▪▪▪▪▪▪▪▪	▪▪▪▪▪▪▪▪▪▪▪▪▪▪▪▪▪▪▪▪▪▪▪▪▪▪▪▪▪▪ ▪▪▪▪▪▪▪▪▪▪▪▪▪▪▪▪▪▪▪▪▪▪▪▪▪▪▪▪▪▪ ▪▪▪▪▪▪▪▪▪▪▪▪▪▪▪▪▪▪▪▪▪▪▪▪▪▪▪▪▪▪▪▪▪▪▪▪▪▪▪▪▪▪▪▪▪▪▪▪▪▪▪▪▪▪▪▪▪▪▪▪▪▪▪▪▪▪▪▪▪▪▪▪▪▪▪▪▪▪▪▪▪▪▪▪▪▪▪▪	▪▪▪▪▪▪▪▪▪▪▪▪▪▪▪▪▪▪▪▪▪▪ ▪▪▪▪▪▪▪▪▪▪▪▪▪▪▪▪▪▪▪▪▪▪	▪▪▪▪▪▪▪▪▪▪▪▪▪▪▪▪▪▪▪▪▪▪▪▪▪▪▪▪▪▪▪▪▪▪▪▪▪▪▪▪▪▪▪▪▪▪▪▪▪
▪▪▪▪▪▪▪▪▪▪▪▪▪▪▪▪▪▪▪▪▪▪	▪▪▪▪▪▪▪▪▪▪▪ ▪▪▪▪▪▪▪▪▪▪▪▪▪▪▪▪▪▪▪▪▪▪▪▪▪▪▪▪▪▪▪▪▪▪▪▪▪▪▪▪▪▪▪▪▪▪▪▪▪▪▪▪▪▪▪▪▪▪▪▪▪▪▪▪▪▪▪▪▪▪▪▪▪▪▪▪▪▪▪▪▪▪▪▪▪▪▪▪	▪▪▪▪▪▪▪▪▪▪▪▪▪▪▪▪▪▪▪▪▪▪▪▪▪▪▪▪▪▪ ▪▪▪▪▪▪▪▪▪▪▪▪▪▪▪▪▪▪▪▪▪▪▪▪▪▪▪▪▪▪ ▪▪▪▪▪▪▪▪▪▪▪▪▪▪▪▪▪▪▪▪▪▪▪▪▪▪▪▪▪▪▪▪▪▪▪▪▪▪▪▪▪▪▪▪▪▪▪▪▪▪▪▪▪▪▪▪▪▪▪▪▪▪▪▪▪▪▪▪▪▪▪▪▪▪▪▪▪▪▪▪▪▪▪▪▪▪▪▪	▪▪▪▪▪▪▪▪▪▪▪▪▪▪▪▪▪▪▪▪▪▪ ▪▪▪▪▪▪▪▪▪▪▪▪▪▪▪▪▪▪▪▪▪▪	▪▪▪▪▪▪▪▪▪▪▪▪▪▪▪▪▪▪▪▪▪▪▪▪▪▪▪▪▪▪▪▪▪▪▪▪▪▪▪▪▪▪▪▪▪▪▪▪▪
▪▪▪▪▪▪▪▪▪▪▪▪▪▪▪▪▪▪▪▪▪▪	▪▪▪▪▪▪▪▪▪▪▪ ▪▪▪▪▪▪▪▪▪▪▪▪▪▪▪▪▪▪▪▪▪▪▪▪▪▪▪▪▪▪▪▪▪▪▪▪▪▪▪▪▪▪▪▪▪▪▪▪▪▪▪▪▪▪▪▪▪▪▪▪▪▪▪▪▪▪▪▪▪▪▪▪▪▪▪▪▪▪▪▪▪▪▪▪▪▪▪▪	▪▪▪▪▪▪▪▪▪▪▪▪▪▪▪▪▪▪▪▪▪▪▪▪▪▪▪▪▪▪ ▪▪▪▪▪▪▪▪▪▪▪▪▪▪▪▪▪▪▪▪▪▪▪▪▪▪▪▪▪▪ ▪▪▪▪▪▪▪▪▪▪▪▪▪▪▪▪▪▪▪▪▪▪▪▪▪▪▪▪▪▪▪▪▪▪▪▪▪▪▪▪▪▪▪▪▪▪▪▪▪▪▪▪▪▪▪▪▪▪▪▪▪▪▪▪▪▪▪▪▪▪▪▪▪▪▪▪▪▪▪▪▪▪▪▪▪▪▪▪	▪▪▪▪▪▪▪▪▪▪▪▪▪▪▪▪▪▪▪▪▪▪ ▪▪▪▪▪▪▪▪▪▪▪▪▪▪▪▪▪▪▪▪▪▪	▪▪▪▪▪▪▪▪▪▪▪▪▪▪▪▪▪▪▪▪▪▪▪▪▪▪▪▪▪▪▪▪▪▪▪▪▪▪▪▪▪▪▪▪▪▪▪▪▪
▪▪▪▪▪▪▪▪▪▪▪▪▪▪▪▪▪▪▪▪▪▪	▪▪▪▪▪▪▪▪▪▪▪ ▪▪▪▪▪▪▪▪▪▪▪▪▪▪▪▪▪▪▪▪▪▪▪▪▪▪▪▪▪▪▪▪▪▪▪▪▪▪▪▪▪▪▪▪▪▪▪▪▪▪▪▪▪▪▪▪▪▪▪▪▪▪▪▪▪▪▪▪▪▪▪▪▪▪▪▪▪▪▪▪▪▪▪▪▪▪▪▪	▪▪▪▪▪▪▪▪▪▪▪▪▪▪▪▪▪▪▪▪▪▪▪▪▪▪▪▪▪▪ ▪▪▪▪▪▪▪▪▪▪▪▪▪▪▪▪▪▪▪▪▪▪▪▪▪▪▪▪▪▪ ▪▪▪▪▪▪▪▪▪▪▪▪▪▪▪▪▪▪▪▪▪▪▪▪▪▪▪▪▪▪▪▪▪▪▪▪▪▪▪▪▪▪▪▪▪▪▪▪▪▪▪▪▪▪▪▪▪▪▪▪▪▪▪▪▪▪▪▪▪▪▪▪▪▪▪▪▪▪▪▪▪▪▪▪▪▪▪▪	▪▪▪▪▪▪▪▪▪▪▪▪▪▪▪▪▪▪▪▪▪▪ ▪▪▪▪▪▪▪▪▪▪▪▪▪▪▪▪▪▪▪▪▪▪	▪▪▪▪▪▪▪▪▪▪▪▪▪▪▪▪▪▪▪▪▪▪▪▪▪▪▪▪▪▪▪▪▪▪▪▪▪▪▪▪▪▪▪▪▪▪▪▪▪
▪▪▪▪▪▪▪▪▪▪▪▪▪▪▪▪▪▪▪▪▪▪	▪▪▪▪▪▪▪▪▪▪▪ ▪▪▪▪▪▪▪▪▪▪▪▪▪▪▪▪▪▪▪▪▪▪▪▪▪▪▪▪▪▪▪▪▪▪▪▪▪▪▪▪▪▪▪▪▪▪▪▪▪▪▪▪▪▪▪▪▪▪▪▪▪▪▪▪▪▪▪▪▪▪▪▪▪▪▪▪▪▪▪▪▪▪▪▪▪▪▪▪	▪▪▪▪▪▪▪▪▪▪▪▪▪▪▪▪▪▪▪▪▪▪▪▪▪▪▪▪▪▪ ▪▪▪▪▪▪▪▪▪▪▪▪▪▪▪▪▪▪▪▪▪▪▪▪▪▪▪▪▪▪ ▪▪▪▪▪▪▪▪▪▪▪▪▪▪▪▪▪▪▪▪▪▪▪▪▪▪▪▪▪▪▪▪▪▪▪▪▪▪▪▪▪▪▪▪▪▪▪▪▪▪▪▪▪▪▪▪▪▪▪▪▪▪▪▪▪▪▪▪▪▪▪▪▪▪▪▪▪▪▪▪▪▪▪▪▪▪▪▪	▪▪▪▪▪▪▪▪▪▪▪▪▪▪▪▪▪▪▪▪▪▪ ▪▪▪▪▪▪▪▪▪▪▪▪▪▪▪▪▪▪▪▪▪▪	▪▪▪▪▪▪▪▪▪▪▪▪▪▪▪▪▪▪▪▪▪▪▪▪▪▪▪▪▪▪▪▪▪▪▪▪▪▪▪▪▪▪▪▪▪▪▪▪▪
▪▪▪▪▪▪▪▪▪▪▪▪▪▪▪▪▪▪▪▪▪▪	▪▪▪▪▪▪▪▪▪▪▪ ▪▪▪▪▪▪▪▪▪▪▪▪▪▪▪▪▪▪▪▪▪▪▪▪▪▪▪▪▪▪▪▪▪▪▪▪▪▪▪▪▪▪▪▪▪▪▪▪▪▪▪▪▪▪▪▪▪▪▪▪▪▪▪▪▪▪▪▪▪▪▪▪▪▪▪▪▪▪▪▪▪▪▪▪▪▪▪▪	▪▪▪▪▪▪▪▪▪▪▪▪▪▪▪▪▪▪▪▪▪▪▪▪▪▪▪▪▪▪ ▪▪▪▪▪▪▪▪▪▪▪▪▪▪▪▪▪▪▪▪▪▪▪▪▪▪▪▪▪▪ ▪▪▪▪▪▪▪▪▪▪▪▪▪▪▪▪▪▪▪▪▪▪▪▪▪▪▪▪▪▪▪▪▪▪▪▪▪▪▪▪▪▪▪▪▪▪▪▪▪▪▪▪▪▪▪▪▪▪▪▪▪▪▪▪▪▪▪▪▪▪▪▪▪▪▪▪▪▪▪▪▪▪▪▪▪▪▪▪	▪▪▪▪▪▪▪▪▪▪▪▪▪▪▪▪▪▪▪▪▪▪ ▪▪▪▪▪▪▪▪▪▪▪▪▪▪▪▪▪▪▪▪▪▪	▪▪▪▪▪▪▪▪▪▪▪▪▪▪▪▪▪▪▪▪▪▪▪▪▪▪▪▪▪▪▪▪▪▪▪▪▪▪▪▪▪▪▪▪▪▪▪▪▪
▪▪▪▪▪▪▪▪▪▪▪▪▪▪▪▪▪▪▪▪▪▪	▪▪▪▪▪▪▪▪▪▪▪ ▪▪▪▪▪▪▪▪▪▪▪▪▪▪▪▪▪▪▪▪▪▪▪▪▪▪▪▪▪▪▪▪▪▪▪▪▪▪▪▪▪▪▪▪▪▪▪▪▪▪▪▪▪▪▪▪▪▪▪▪▪▪▪▪▪▪▪▪▪▪▪▪▪▪▪▪▪▪▪▪▪▪▪▪▪▪▪▪	▪▪▪▪▪▪▪▪▪▪▪▪▪▪▪▪▪▪▪▪▪▪▪▪▪▪▪▪▪▪ ▪▪▪▪▪▪▪▪▪▪▪▪▪▪▪▪▪▪▪▪▪▪▪▪▪▪▪▪▪▪ ▪▪▪▪▪▪▪▪▪▪▪▪▪▪▪▪▪▪▪▪▪▪▪▪▪▪▪▪▪▪▪▪▪▪▪▪▪▪▪▪▪▪▪▪▪▪▪▪▪▪▪▪▪▪▪▪▪▪▪▪▪▪▪▪▪▪▪▪▪▪▪▪▪▪▪▪▪▪▪▪▪▪▪▪▪▪▪▪	▪▪▪▪▪▪▪▪▪▪▪▪▪▪▪▪▪▪▪▪▪▪ ▪▪▪▪▪▪▪▪▪▪▪▪▪▪▪▪▪▪▪▪▪▪	▪▪▪▪▪▪▪▪▪▪▪▪▪▪▪▪▪▪▪▪▪▪▪▪▪▪▪▪▪▪▪▪▪▪▪▪▪▪▪▪▪▪▪▪▪▪▪▪▪
▪▪▪▪▪▪▪▪▪▪▪▪▪▪▪▪▪▪▪▪▪▪	▪▪▪▪▪▪▪▪▪▪▪ ▪▪▪▪▪▪▪▪▪▪▪▪▪▪▪▪▪▪▪▪▪▪▪▪▪▪▪▪▪▪▪▪▪▪▪▪▪▪▪▪▪▪▪▪▪▪▪▪▪▪▪▪▪▪▪▪▪▪▪▪▪▪▪▪▪▪▪▪▪▪▪▪▪▪▪▪▪▪▪▪▪▪▪▪▪▪▪▪	▪▪▪▪▪▪▪▪▪▪▪▪▪▪▪▪▪▪▪▪▪▪▪▪▪▪▪▪▪▪ ▪▪▪▪▪▪▪▪▪▪▪▪▪▪▪▪▪▪▪▪▪▪▪▪▪▪▪▪▪▪ ▪▪▪▪▪▪▪▪▪▪▪▪▪▪▪▪▪▪▪▪▪▪▪▪▪▪▪▪▪▪▪▪▪▪▪▪▪▪▪▪▪▪▪▪▪▪▪▪▪▪▪▪▪▪▪▪▪▪▪▪▪▪▪▪▪▪▪▪▪▪▪▪▪▪▪▪▪▪▪▪▪▪▪▪▪▪▪▪	▪▪▪▪▪▪▪▪▪▪▪▪▪▪▪▪▪▪▪▪▪▪ ▪▪▪▪▪▪▪▪▪▪▪▪▪▪▪▪▪▪▪▪▪▪	▪▪▪▪▪▪▪▪▪▪▪▪▪▪▪▪▪▪▪▪▪▪▪▪▪▪▪▪▪▪▪▪▪▪▪▪▪▪▪▪▪▪▪▪▪▪▪▪▪
▪▪▪▪▪▪▪▪▪▪▪▪▪▪▪▪▪▪▪▪▪▪	▪▪▪▪▪▪▪▪▪▪▪ ▪▪▪▪▪▪▪▪▪▪▪▪▪▪▪▪▪▪▪▪▪▪▪▪▪▪▪▪▪▪▪▪▪▪▪▪▪▪▪▪▪▪▪▪▪▪▪▪▪▪▪▪▪▪▪▪▪▪▪▪▪▪▪▪▪▪▪▪▪▪▪▪▪▪▪▪▪▪▪▪▪▪▪▪▪▪▪▪	▪▪▪▪▪▪▪▪▪▪▪▪▪▪▪▪▪▪▪▪▪▪▪▪▪▪▪▪▪▪ ▪▪▪▪▪▪▪▪▪▪▪▪▪▪▪▪▪▪▪▪▪▪▪▪▪▪▪▪▪▪ ▪▪▪▪▪▪▪▪▪▪▪▪▪▪▪▪▪▪▪▪▪▪▪▪▪▪▪▪▪▪▪▪▪▪▪▪▪▪▪▪▪▪▪▪▪▪▪▪▪▪▪▪▪▪▪▪▪▪▪▪▪▪▪▪▪▪▪▪▪▪▪▪▪▪▪▪▪▪▪▪▪▪▪▪▪▪▪▪	▪▪▪▪▪▪▪▪▪▪▪▪▪▪▪▪▪▪▪▪▪▪ ▪▪▪▪▪▪▪▪▪▪▪▪▪▪▪▪▪▪▪▪▪▪	▪▪▪▪▪▪▪▪▪▪▪▪▪▪▪▪▪▪▪▪▪▪▪▪▪▪▪▪▪▪▪▪▪▪▪▪▪▪▪▪▪▪▪▪▪▪▪▪▪
▪▪▪▪▪▪▪▪▪▪▪▪▪▪▪▪▪▪▪▪▪▪	▪▪▪▪▪▪▪▪▪▪▪ ▪▪▪▪▪▪▪▪▪▪▪▪▪▪▪▪▪▪▪▪▪▪▪▪▪▪▪▪▪▪▪▪▪▪▪▪▪▪▪▪▪▪▪▪▪▪▪▪▪▪▪▪▪▪▪▪▪▪▪▪▪▪▪▪▪▪▪▪▪▪▪▪▪▪▪▪▪▪▪▪▪▪▪▪▪▪▪▪	▪▪▪▪▪▪▪▪▪▪▪▪▪▪▪▪▪▪▪▪▪▪▪▪▪▪▪▪▪▪ ▪▪▪▪▪▪▪▪▪▪▪▪▪▪▪▪▪▪▪▪▪▪▪▪▪▪▪▪▪▪ ▪▪▪▪▪▪▪▪▪▪▪▪▪▪▪▪▪▪▪▪▪▪▪▪▪▪▪▪▪▪▪▪▪▪▪▪▪▪▪▪▪▪▪▪▪▪▪▪▪▪▪▪▪▪▪▪▪▪▪▪▪▪▪▪▪▪▪▪▪▪▪▪▪▪▪▪▪▪▪▪▪▪▪▪▪▪▪▪	▪▪▪▪▪▪▪▪▪▪▪▪▪▪▪▪▪▪▪▪▪▪ ▪▪▪▪▪▪▪▪▪▪▪▪▪▪▪▪▪▪▪▪▪▪	▪▪▪▪▪▪▪▪▪▪▪▪▪▪▪▪▪▪▪▪▪▪▪▪▪▪▪▪▪▪▪▪▪▪▪▪▪▪▪▪▪▪▪▪▪▪▪▪▪
▪▪▪▪▪▪▪▪▪▪▪▪▪▪▪▪▪▪▪▪▪▪	▪▪▪▪▪▪▪▪▪▪▪ ▪▪▪▪▪▪▪▪▪▪▪▪▪▪▪▪▪▪▪▪▪▪▪▪▪▪▪▪▪▪▪▪▪▪▪▪▪▪▪▪▪▪▪▪▪▪▪▪▪▪▪▪▪▪▪▪▪▪▪▪▪▪▪▪▪▪▪▪▪▪▪▪▪▪▪▪▪▪▪▪▪▪▪▪▪▪▪▪	▪▪▪▪▪▪▪▪▪▪▪▪▪▪▪▪▪▪▪▪▪▪▪▪▪▪▪▪▪▪ ▪▪▪▪▪▪▪▪▪▪▪▪▪▪▪▪▪▪▪▪▪▪▪▪▪▪▪▪▪▪ ▪▪▪▪▪▪▪▪▪▪▪▪▪▪▪▪▪▪▪▪▪▪▪▪▪▪▪▪▪▪▪▪▪▪▪▪▪▪▪▪▪▪▪▪▪▪▪▪▪▪▪▪▪▪▪▪▪▪▪▪▪▪▪▪▪▪▪▪▪▪▪▪▪▪▪▪▪▪▪▪▪▪▪▪▪▪▪▪	▪▪▪▪▪▪▪▪▪▪▪▪▪▪▪▪▪▪▪▪▪▪ ▪▪▪▪▪▪▪▪▪▪▪▪▪▪▪▪▪▪▪▪▪▪	▪▪▪▪▪▪▪▪▪▪▪▪▪▪▪▪▪▪▪▪▪▪▪▪▪▪▪▪▪▪▪▪▪▪▪▪▪▪▪▪▪▪▪▪▪▪▪▪▪
▪▪▪▪▪▪▪▪▪▪▪▪▪▪▪▪▪▪▪▪▪▪	▪▪▪▪▪▪▪▪▪▪▪ ▪▪▪▪▪▪▪▪▪▪▪▪▪▪▪▪▪▪▪▪▪▪▪▪▪▪▪▪▪▪▪▪▪▪▪▪▪▪▪▪▪▪▪▪▪▪▪▪▪▪▪▪▪▪▪▪▪▪▪▪▪▪▪▪▪▪▪▪▪▪▪▪▪▪▪▪▪▪▪▪▪▪▪▪▪▪▪▪	▪▪▪▪▪▪▪▪▪▪▪▪▪▪▪▪▪▪▪▪▪▪▪▪▪▪▪▪▪▪ ▪▪▪▪▪▪▪▪▪▪▪▪▪▪▪▪▪▪▪▪▪▪▪▪▪▪▪▪▪▪ ▪▪▪▪▪▪▪▪▪▪▪▪▪▪▪▪▪▪▪▪▪▪▪▪▪▪▪▪▪▪▪▪▪▪▪▪▪▪▪▪▪▪▪▪▪▪▪▪▪▪▪▪▪▪▪▪▪▪▪▪▪▪▪▪▪▪▪▪▪▪▪▪▪▪▪▪▪▪▪▪▪▪▪▪▪▪▪▪	▪▪▪▪▪▪▪▪▪▪▪▪▪▪▪▪▪▪▪▪▪▪ ▪▪▪▪▪▪▪▪▪▪▪▪▪▪▪▪▪▪▪▪▪▪	▪▪▪▪▪▪▪▪▪▪▪▪▪▪▪▪▪▪▪▪▪▪▪▪▪▪▪▪▪▪▪▪▪▪▪▪▪▪▪▪▪▪▪▪▪▪▪▪▪
▪▪▪▪▪▪▪▪▪▪▪▪▪▪▪▪▪▪▪▪▪▪	▪▪▪▪▪▪▪▪▪▪▪ ▪▪▪▪▪▪▪▪▪▪▪▪▪▪▪▪▪▪▪▪▪▪▪▪▪▪▪▪▪▪▪▪▪▪▪▪▪▪▪▪▪▪▪▪▪▪▪▪▪▪▪▪▪▪▪▪▪▪▪▪▪▪▪▪▪▪▪▪▪▪▪▪▪▪▪▪▪▪▪▪▪▪▪▪▪▪▪▪	▪▪▪▪▪▪▪▪▪▪▪▪▪▪▪▪▪▪▪▪▪▪▪▪▪▪▪▪▪▪ ▪▪▪▪▪▪▪▪▪▪▪▪▪▪▪▪▪▪▪▪▪▪▪▪▪▪▪▪▪▪ ▪▪▪▪▪▪▪▪▪▪▪▪▪▪▪▪▪▪▪▪▪▪▪▪▪▪▪▪▪▪▪▪▪▪▪▪▪▪▪▪▪▪▪▪▪▪▪▪▪▪▪▪▪▪▪▪▪▪▪▪▪▪▪▪▪▪▪▪▪▪▪▪▪▪▪▪▪▪▪▪▪▪▪▪▪▪▪▪	▪▪▪▪▪▪▪▪▪▪▪▪▪▪▪▪▪▪▪▪▪▪ ▪▪▪▪▪▪▪▪▪▪▪▪▪▪▪▪▪▪▪▪▪▪	▪▪▪▪▪▪▪▪▪▪▪▪▪▪▪▪▪▪▪▪▪▪▪▪▪▪▪▪▪▪▪▪▪▪▪▪▪▪▪▪▪▪▪▪▪▪▪▪▪
▪▪▪▪▪▪▪▪▪▪▪▪▪▪▪▪▪▪▪▪▪▪	▪▪▪▪▪▪▪▪▪▪▪ ▪▪▪▪▪▪▪▪▪▪▪▪▪▪▪▪▪▪▪▪▪▪▪▪▪▪▪▪▪▪▪▪▪▪▪▪▪▪▪▪▪▪▪▪▪▪▪▪▪▪▪▪▪▪▪▪▪▪▪▪▪▪▪▪▪▪▪▪▪▪▪▪▪▪▪▪▪▪▪▪▪▪▪▪▪▪▪▪	▪▪▪▪▪▪▪▪▪▪▪▪▪▪▪▪▪▪▪▪▪▪▪▪▪▪▪▪▪▪ ▪▪▪▪▪▪▪▪▪▪▪▪▪▪▪▪▪▪▪▪▪▪▪▪▪▪▪▪▪▪ ▪▪▪▪▪▪▪▪▪▪▪▪▪▪▪▪▪▪▪▪▪▪▪▪▪▪▪▪▪▪▪▪▪▪▪▪▪▪▪▪▪▪▪▪▪▪▪▪▪▪▪▪▪▪▪▪▪▪▪▪▪▪▪▪▪▪▪▪▪▪▪▪▪▪▪▪▪▪▪▪▪▪▪▪▪▪▪▪	▪▪▪▪▪▪▪▪▪▪▪▪▪▪▪▪▪▪▪▪▪▪ ▪▪▪▪▪▪▪▪▪▪▪▪▪▪▪▪▪▪▪▪▪▪	▪▪▪▪▪▪▪▪▪▪▪▪▪▪▪▪▪▪▪▪▪▪▪▪▪▪▪▪▪▪▪▪▪▪▪▪▪▪▪▪▪▪▪▪▪▪▪▪▪
▪▪▪▪▪▪▪▪▪▪▪▪▪▪▪▪▪▪▪▪▪▪	▪▪▪▪▪▪▪▪▪▪▪ ▪▪▪▪▪▪▪▪▪▪▪▪▪▪▪▪▪▪▪▪▪▪▪▪▪▪▪▪▪▪▪▪▪▪▪▪▪▪▪▪▪▪▪▪▪▪▪▪▪▪▪▪▪▪▪▪▪▪▪▪▪▪▪▪▪▪▪▪▪▪▪▪▪▪▪▪▪▪▪▪▪▪▪▪▪▪▪▪	▪▪▪▪▪▪▪▪▪▪▪▪▪▪▪▪▪▪▪▪▪▪▪▪▪▪▪▪▪▪ ▪▪▪▪▪▪▪▪▪▪▪▪▪▪▪▪▪▪▪▪▪▪▪▪▪▪▪▪▪▪ ▪▪▪▪▪▪▪▪▪▪▪▪▪▪▪▪▪▪▪▪▪▪▪▪▪▪▪▪▪▪▪▪▪▪▪▪▪▪▪▪▪▪▪▪▪▪▪▪▪▪▪▪▪▪▪▪▪▪▪▪▪▪▪▪▪▪▪▪▪▪▪▪▪▪▪▪▪▪▪▪▪▪▪▪▪▪▪▪	▪▪▪▪▪▪▪▪▪▪▪▪▪▪▪▪▪▪▪▪▪▪ ▪▪▪▪▪▪▪▪▪▪▪▪▪▪▪▪▪▪▪▪▪▪	▪▪▪▪▪▪▪▪▪▪▪▪▪▪▪▪▪▪▪▪▪▪▪▪▪▪▪▪▪▪▪▪▪▪▪▪▪▪▪▪▪▪▪▪▪▪▪▪▪
▪▪▪▪▪▪▪▪▪▪▪▪▪▪▪▪▪▪▪▪▪▪	▪▪▪▪▪▪▪▪▪▪▪ ▪▪▪▪▪▪▪▪▪▪▪▪▪▪▪▪▪▪▪▪▪▪▪▪▪▪▪▪▪▪▪▪▪▪▪▪▪▪▪▪▪▪▪▪▪▪▪▪▪▪▪▪▪▪▪▪▪▪▪▪▪▪▪▪▪▪▪▪▪▪▪▪▪▪▪▪▪▪▪▪▪▪▪▪▪▪▪▪	▪▪▪▪▪▪▪▪▪▪▪▪▪▪▪▪▪▪▪▪▪▪▪▪▪▪▪▪▪▪ ▪▪▪▪▪▪▪▪▪▪▪▪▪▪▪▪▪▪▪▪▪▪▪▪▪▪▪▪▪▪ ▪▪▪▪▪▪▪▪▪▪▪▪▪▪▪▪▪▪▪▪▪▪▪▪▪▪▪▪▪▪▪▪▪▪▪▪▪▪▪▪▪▪▪▪▪▪▪▪▪▪▪▪▪▪▪▪▪▪▪▪▪▪▪▪▪▪▪▪▪▪▪▪▪▪▪▪▪▪▪▪▪▪▪▪▪▪▪▪	▪▪▪▪▪▪▪▪▪▪▪▪▪▪▪▪▪▪▪▪▪▪ ▪▪▪▪▪▪▪▪▪▪▪▪▪▪▪▪▪▪▪▪▪▪	▪▪▪▪▪▪▪▪▪▪▪▪▪▪▪▪▪▪▪▪▪▪▪▪▪▪▪▪▪▪▪▪▪▪▪▪▪▪▪▪▪▪▪▪▪▪▪▪▪
▪▪▪▪▪▪▪▪▪▪▪▪▪▪▪▪▪▪▪▪▪▪	▪▪▪▪▪▪▪▪▪▪▪ ▪▪▪▪▪▪▪▪▪▪▪▪▪▪▪▪▪▪▪▪▪▪▪▪▪▪▪▪▪▪▪▪▪▪▪▪▪▪▪▪▪▪▪▪▪▪▪▪▪▪▪▪▪▪▪▪▪▪▪▪▪▪▪▪▪▪▪▪▪▪▪▪▪▪▪▪▪▪▪▪▪▪▪▪▪▪▪▪	▪▪▪▪▪▪▪▪▪▪▪▪▪▪▪▪▪▪▪▪▪▪▪▪▪▪▪▪▪▪ ▪▪▪▪▪▪▪▪▪▪▪▪▪▪▪▪▪▪▪▪▪▪▪▪▪▪▪▪▪▪ ▪▪▪▪▪▪▪▪▪▪▪▪▪▪▪▪▪▪▪▪▪▪▪▪▪▪▪▪▪▪▪▪▪▪▪▪▪▪▪▪▪▪▪▪▪▪▪▪▪▪▪▪▪▪▪▪▪▪▪▪▪▪▪▪▪▪▪▪▪▪▪▪▪▪▪▪▪▪▪▪▪▪▪▪▪▪▪▪	▪▪▪▪▪▪▪▪▪▪▪▪▪▪▪▪▪▪▪▪▪▪ ▪▪▪▪▪▪▪▪▪▪▪▪▪▪▪▪▪▪▪▪▪▪	▪▪▪▪▪▪▪▪▪▪▪▪▪▪▪▪▪▪▪▪▪▪▪▪▪▪▪▪▪▪▪▪▪▪▪▪▪▪▪▪▪▪▪▪▪▪▪▪▪
▪▪▪▪▪▪▪▪▪▪▪▪▪▪▪▪▪▪▪▪▪▪	▪▪▪▪▪▪▪▪▪▪▪ ▪▪▪▪▪▪▪▪▪▪▪▪▪▪▪▪▪▪▪▪▪▪▪▪▪▪▪▪▪▪▪▪▪▪▪▪▪▪▪▪▪▪▪▪▪▪▪▪▪▪▪▪▪▪▪▪▪▪▪▪▪▪▪▪▪▪▪▪▪▪▪▪▪▪▪▪▪▪▪▪▪▪▪▪▪▪▪▪	▪▪▪▪▪▪▪▪▪▪▪▪▪▪▪▪▪▪▪▪▪▪▪▪▪▪▪▪▪▪ ▪▪▪▪▪▪▪▪▪▪▪▪▪▪▪▪▪▪▪▪▪▪▪▪▪▪▪▪▪▪ ▪▪▪▪▪▪▪▪▪▪▪▪▪▪▪▪▪▪▪▪▪▪▪▪▪▪▪▪▪▪▪▪▪▪▪▪▪▪▪▪▪▪▪▪▪▪▪▪▪▪▪▪▪▪▪▪▪▪▪▪▪▪▪▪▪▪▪▪▪▪▪▪▪▪▪▪▪▪▪▪▪▪▪▪▪▪▪▪	▪▪▪▪▪▪▪▪▪▪▪▪▪▪▪▪▪▪▪▪▪▪ ▪▪▪▪▪▪▪▪▪▪▪▪▪▪▪▪▪▪▪▪▪▪	▪▪▪▪▪▪▪▪▪▪▪▪▪▪▪▪▪▪▪▪▪▪▪▪▪▪▪▪▪▪▪▪▪▪▪▪▪▪▪▪▪▪▪▪▪▪▪▪▪
▪▪▪▪▪▪▪▪▪▪▪▪▪▪▪▪▪▪▪▪▪▪	▪▪▪▪▪▪▪▪▪▪▪ ▪▪▪▪▪▪▪▪▪▪▪▪▪▪▪▪▪▪▪▪▪▪▪▪▪▪▪▪▪▪▪▪▪▪▪▪▪▪▪▪▪▪▪▪▪▪▪▪▪▪▪▪▪▪▪▪▪▪▪▪▪▪▪▪▪▪▪▪▪▪▪▪▪▪▪▪▪▪▪▪▪▪▪▪▪▪▪▪	▪▪▪▪▪▪▪▪▪▪▪▪▪▪▪▪▪▪▪▪▪▪▪▪▪▪▪▪▪▪ ▪▪▪▪▪▪▪▪▪▪▪▪▪▪▪▪▪▪▪▪▪▪▪▪▪▪▪▪▪▪ ▪▪▪▪▪▪▪▪▪▪▪▪▪▪▪▪▪▪▪▪▪▪▪▪▪▪▪▪▪▪▪▪▪▪▪▪▪▪▪▪▪▪▪▪▪▪▪▪▪▪▪▪▪▪▪▪▪▪▪▪▪▪▪▪▪▪▪▪▪▪▪▪▪▪▪▪▪▪▪▪▪▪▪▪▪▪▪▪	▪▪▪▪▪▪▪▪▪▪▪▪▪▪▪▪▪▪▪▪▪▪ ▪▪▪▪▪▪▪▪▪▪▪▪▪▪▪▪▪▪▪▪▪▪	▪▪▪▪▪▪▪▪▪▪▪▪▪▪▪▪▪▪▪▪▪▪▪▪▪▪▪▪▪▪▪▪▪▪▪▪▪▪▪▪▪▪▪▪▪▪▪▪▪
▪▪▪▪▪▪▪▪▪▪▪▪▪▪▪▪▪▪▪▪▪▪	▪▪▪▪▪▪▪▪▪▪▪ ▪▪▪▪▪▪▪▪▪▪▪▪▪▪▪▪▪▪▪▪▪▪▪▪▪▪▪▪▪▪▪▪▪▪▪▪▪▪▪▪▪▪▪▪▪▪▪▪▪▪▪▪▪▪▪▪▪▪▪▪▪▪▪▪▪▪▪▪▪▪▪▪▪▪▪▪▪▪▪▪▪▪▪▪▪▪▪▪	▪▪▪▪▪▪▪▪▪▪▪▪▪▪▪▪▪▪▪▪▪▪▪▪▪▪▪▪▪▪ ▪▪▪▪▪▪▪▪▪▪▪▪▪▪▪▪▪▪▪▪▪▪▪▪▪▪▪▪▪▪ ▪▪▪▪▪▪▪▪▪▪▪▪▪▪▪▪▪▪▪▪▪▪▪▪▪▪▪▪▪▪▪▪▪▪▪▪▪▪▪▪▪▪▪▪▪▪▪▪▪▪▪▪▪▪▪▪▪▪▪▪▪▪▪▪▪▪▪▪▪▪▪▪▪▪▪▪▪▪▪▪▪▪▪▪▪▪▪▪	▪▪▪▪▪▪▪▪▪▪▪▪▪▪▪▪▪▪▪▪▪▪ ▪▪▪▪▪▪▪▪▪▪▪▪▪▪▪▪▪▪▪▪▪▪	▪▪▪▪▪▪▪▪▪▪▪▪▪▪▪▪▪▪▪▪▪▪▪▪▪▪▪▪▪▪▪▪▪▪▪▪▪▪▪▪▪▪▪▪▪▪▪▪▪
▪▪▪▪▪▪▪▪▪▪▪▪▪▪▪▪▪▪▪▪▪▪	▪▪▪▪▪▪▪▪▪▪▪ ▪▪▪▪▪▪▪▪▪▪▪▪▪▪▪▪▪▪▪▪▪▪▪▪▪▪▪▪▪▪▪▪▪▪▪▪▪▪▪▪▪▪▪▪▪▪▪▪▪▪▪▪▪▪▪▪▪▪▪▪▪▪▪▪▪▪▪▪▪▪▪▪▪▪▪▪▪▪▪▪▪▪▪▪▪▪▪▪	▪▪▪▪▪▪▪▪▪▪▪▪▪▪▪▪▪▪▪▪▪▪▪▪▪▪▪▪▪▪ ▪▪▪▪▪▪▪▪▪▪▪▪▪▪▪▪▪▪▪▪▪▪▪▪▪▪▪▪▪▪ ▪▪▪▪▪▪▪▪▪▪▪▪▪▪▪▪▪▪▪▪▪▪▪▪▪▪▪▪▪▪▪▪▪▪▪▪▪▪▪▪▪▪▪▪▪▪▪▪▪▪▪▪▪▪▪▪▪▪▪▪▪▪▪▪▪▪▪▪▪▪▪▪▪▪▪▪▪▪▪▪▪▪▪▪▪▪▪▪	▪▪▪▪▪▪▪▪▪▪▪▪▪▪▪▪▪▪▪▪▪▪ ▪▪▪▪▪▪▪▪▪▪▪▪▪▪▪▪▪▪▪▪▪▪	▪▪▪▪▪▪▪▪▪▪▪▪▪▪▪▪▪▪▪▪▪▪▪▪▪▪▪▪▪▪▪▪▪▪▪▪▪▪▪▪▪▪▪▪▪▪▪▪▪
▪▪▪▪▪▪▪▪▪▪▪▪▪▪▪▪▪▪▪▪▪▪	▪▪▪▪▪▪▪▪▪▪▪ ▪▪▪▪▪▪▪▪▪▪▪▪▪▪▪▪▪▪▪▪▪▪▪▪▪▪▪▪▪▪▪▪▪▪▪▪▪▪▪▪▪▪▪▪▪▪▪▪▪▪▪▪▪▪▪▪▪▪▪▪▪▪▪▪▪▪▪▪▪▪▪▪▪▪▪▪▪▪▪▪▪▪▪▪▪▪▪▪	▪▪▪▪▪▪▪▪▪▪▪▪▪▪▪▪▪▪▪▪▪▪▪▪▪▪▪▪▪▪ ▪▪▪▪▪▪▪▪▪▪▪▪▪▪▪▪▪▪▪▪▪▪▪▪▪▪▪▪▪▪ ▪▪▪▪▪▪▪▪▪▪▪▪▪▪▪▪▪▪▪▪▪▪▪▪▪▪▪▪▪▪▪▪▪▪▪▪▪▪▪▪▪▪▪▪▪▪▪▪▪▪▪▪▪▪▪▪▪▪▪▪▪▪▪▪▪▪▪▪▪▪▪▪▪▪▪▪▪▪▪▪▪▪▪▪▪▪▪▪	▪▪▪▪▪▪▪▪▪▪▪▪▪▪▪▪▪▪▪▪▪▪ ▪▪▪▪▪▪▪▪▪▪▪▪▪▪▪▪▪▪▪▪▪▪	▪▪▪▪▪▪▪▪▪▪▪▪▪▪▪▪▪▪▪▪▪▪▪▪▪▪▪▪▪▪▪▪▪▪▪▪▪▪▪▪▪▪▪▪▪▪▪▪▪
▪▪▪▪▪▪▪▪▪▪▪▪▪▪▪▪▪▪▪▪▪▪	▪▪▪▪▪▪▪▪▪▪▪ ▪▪▪▪▪▪▪▪▪▪▪▪▪▪▪▪▪▪▪▪▪▪▪▪▪▪▪▪▪▪▪▪▪▪▪▪▪▪▪▪▪▪▪▪▪▪▪▪▪▪▪▪▪▪▪▪▪▪▪▪▪▪▪▪▪▪▪▪▪▪▪▪▪▪▪▪▪▪▪▪▪▪▪▪▪▪▪▪	▪▪▪▪▪▪▪▪▪▪▪▪▪▪▪▪▪▪▪▪▪▪▪▪▪▪▪▪▪▪ ▪▪▪▪▪▪▪▪▪▪▪▪▪▪▪▪▪▪▪▪▪▪▪▪▪▪▪▪▪▪ ▪▪▪▪▪▪▪▪▪▪▪▪▪▪▪▪▪▪▪▪▪▪▪▪▪▪▪▪▪▪▪▪▪▪▪▪▪▪▪▪▪▪▪▪▪▪▪▪▪▪▪▪▪▪▪▪▪▪▪▪▪▪▪▪▪▪▪▪▪▪▪▪▪▪▪▪▪▪▪▪▪▪▪▪▪▪▪▪	▪▪▪▪▪▪▪▪▪▪▪▪▪▪▪▪▪▪▪▪▪▪ ▪▪▪▪▪▪▪▪▪▪▪▪▪▪▪▪▪▪▪▪▪▪	▪▪▪▪▪▪▪▪▪▪▪▪▪▪▪▪▪▪▪▪▪▪▪▪▪▪▪▪▪▪▪▪▪▪▪▪▪▪▪▪▪▪▪▪▪▪▪▪▪
▪▪▪▪▪▪▪▪▪▪▪▪▪▪▪▪▪▪▪▪▪▪	▪▪▪▪▪▪▪▪▪▪▪ ▪▪▪▪▪▪▪▪▪▪▪▪▪▪▪▪▪▪▪▪▪▪▪▪▪▪▪▪▪▪▪▪▪▪▪▪▪▪▪▪▪▪▪▪▪▪▪▪▪▪▪▪▪▪▪▪▪▪▪▪▪▪▪▪▪▪▪▪▪▪▪▪▪▪▪▪▪▪▪▪▪▪▪▪▪▪▪▪	▪▪▪▪▪▪▪▪▪▪▪▪▪▪▪▪▪▪▪▪▪▪▪▪▪▪▪▪▪▪ ▪▪▪▪▪▪▪▪▪▪▪▪▪▪▪▪▪▪▪▪▪▪▪▪▪▪▪▪▪▪ ▪▪▪▪▪▪▪▪▪▪▪▪▪▪▪▪▪▪▪▪▪▪▪▪▪▪▪▪▪▪▪▪▪▪▪▪▪▪▪▪▪▪▪▪▪▪▪▪▪▪▪▪▪▪▪▪▪▪▪▪▪▪▪▪▪▪▪▪▪▪▪▪▪▪▪▪▪▪▪▪▪▪▪▪▪▪▪▪	▪▪▪▪▪▪▪▪▪▪▪▪▪▪▪▪▪▪▪▪▪▪ ▪▪▪▪▪▪▪▪▪▪▪▪▪▪▪▪▪▪▪▪▪▪	▪▪▪▪▪▪▪▪▪▪▪▪▪▪▪▪▪▪▪▪▪▪▪▪▪▪▪▪▪▪▪▪▪▪▪▪▪▪▪▪▪▪▪▪▪▪▪▪▪
▪▪▪▪▪▪▪▪▪▪▪▪▪▪▪▪▪▪▪▪▪▪	▪▪▪▪▪▪▪▪▪▪▪ ▪▪▪▪▪▪▪▪▪▪▪▪▪▪▪▪▪▪▪▪▪▪▪▪▪▪▪▪▪▪▪▪▪▪▪▪▪▪▪▪▪▪▪▪▪▪▪▪▪▪▪▪▪▪▪▪▪▪▪▪▪▪▪▪▪▪▪▪▪▪▪▪▪▪▪▪▪▪▪▪▪▪▪▪▪▪▪▪	▪▪▪▪▪▪▪▪▪▪▪▪▪▪▪▪▪▪▪▪▪▪▪▪▪▪▪▪▪▪ ▪▪▪▪▪▪▪▪▪▪▪▪▪▪▪▪▪▪▪▪▪▪▪▪▪▪▪▪▪▪ ▪▪▪▪▪▪▪▪▪▪▪▪▪▪▪▪▪▪▪▪▪▪▪▪▪▪▪▪▪▪▪▪▪▪▪▪▪▪▪▪▪▪▪▪▪▪▪▪▪▪▪▪▪▪▪▪▪▪▪▪▪▪▪▪▪▪▪▪▪▪▪▪▪▪▪▪▪▪▪▪▪▪▪▪▪▪▪▪	▪▪▪▪▪▪▪▪▪▪▪▪▪▪▪▪▪▪▪▪▪▪ ▪▪▪▪▪▪▪▪▪▪▪▪▪▪▪▪▪▪▪▪▪▪	▪▪▪▪▪▪▪▪▪▪▪▪▪▪▪▪▪▪▪▪▪▪▪▪▪▪▪▪▪▪▪▪▪▪▪▪▪▪▪▪▪▪▪▪▪▪▪▪▪
▪▪▪▪▪▪▪▪▪▪▪▪▪▪▪▪▪▪▪▪▪▪	▪▪▪▪▪▪▪▪▪▪▪ ▪▪▪▪▪▪▪▪▪▪▪▪▪▪▪▪▪▪▪▪▪▪▪▪▪▪▪▪▪▪▪▪▪▪▪▪▪▪▪▪▪▪▪▪▪▪▪▪▪▪▪▪▪▪▪▪▪▪▪▪▪▪▪▪▪▪▪▪▪▪▪▪▪▪▪▪▪▪▪▪▪▪▪▪▪▪▪▪	▪▪▪▪▪▪▪▪▪▪▪▪▪▪▪▪▪▪▪▪▪▪▪▪▪▪▪▪▪▪ ▪▪▪▪▪▪▪▪▪▪▪▪▪▪▪▪▪▪▪▪▪▪▪▪▪▪▪▪▪▪ ▪▪▪▪▪▪▪▪▪▪▪▪▪▪▪▪▪▪▪▪▪▪▪▪▪▪▪▪▪▪▪▪▪▪▪▪▪▪▪▪▪▪▪▪▪▪▪▪▪▪▪▪▪▪▪▪▪▪▪▪▪▪▪▪▪▪▪▪▪▪▪▪▪▪▪▪▪▪▪▪▪▪▪▪▪▪▪▪	▪▪▪▪▪▪▪▪▪▪▪▪▪▪▪▪▪▪▪▪▪▪ ▪▪▪▪▪▪▪▪▪▪▪▪▪▪▪▪▪▪▪▪▪▪	▪▪▪▪▪▪▪▪▪▪▪▪▪▪▪▪▪▪▪▪▪▪▪▪▪▪▪▪▪▪▪▪▪▪▪▪▪▪▪▪▪▪▪▪▪▪▪▪▪
▪▪▪▪▪▪▪▪▪▪▪▪▪▪▪▪▪▪▪▪▪▪	▪▪▪▪▪▪▪▪▪▪▪ ▪▪▪▪▪▪▪▪▪▪▪▪▪▪▪▪▪▪▪▪▪▪▪▪▪▪▪▪▪▪▪▪▪▪▪▪▪▪▪▪▪▪▪▪▪▪▪▪▪▪▪▪▪▪▪▪▪▪▪▪▪▪▪▪▪▪▪▪▪▪▪▪▪▪▪▪▪▪▪▪▪▪▪▪▪▪▪▪	▪▪▪▪▪▪▪▪▪▪▪▪▪▪▪▪▪▪▪▪▪▪▪▪▪▪▪▪▪▪ ▪▪▪▪▪▪▪▪▪▪▪▪▪▪▪▪▪▪▪▪▪▪▪▪▪▪▪▪▪▪ ▪▪▪▪▪▪▪▪▪▪▪▪▪▪▪▪▪▪▪▪▪▪▪▪▪▪▪▪▪▪▪▪▪▪▪▪▪▪▪▪▪▪▪▪▪▪▪▪▪▪▪▪▪▪▪▪▪▪▪▪▪▪▪▪▪▪▪▪▪▪▪▪▪▪▪▪▪▪▪▪▪▪▪▪▪▪▪▪	▪▪▪▪▪▪▪▪▪▪▪▪▪▪▪▪▪▪▪▪▪▪ ▪▪▪▪▪▪▪▪▪▪▪▪▪▪▪▪▪▪▪▪▪▪	▪▪▪▪▪▪▪▪▪▪▪▪▪▪▪▪▪▪▪▪▪▪▪▪▪▪▪▪▪▪▪▪▪▪▪▪▪▪▪▪▪▪▪▪▪▪▪▪▪
▪▪▪▪▪▪▪▪▪▪▪▪▪▪▪▪▪▪▪▪▪▪	▪▪▪▪▪▪▪▪▪▪▪ ▪▪▪▪▪▪▪▪▪▪▪▪▪▪▪▪▪▪▪▪▪▪▪▪▪▪▪▪▪▪▪▪▪▪▪▪▪▪▪▪▪▪▪▪▪▪▪▪▪▪▪▪▪▪▪▪▪▪▪▪▪▪▪▪▪▪▪▪▪▪▪▪▪▪▪▪▪▪▪▪▪▪▪▪▪▪▪▪	▪▪▪▪▪▪▪▪▪▪▪▪▪▪▪▪▪▪▪▪▪▪▪▪▪▪▪▪▪▪ ▪▪▪▪▪▪▪▪▪▪▪▪▪▪▪▪▪▪▪▪▪▪▪▪▪▪▪▪▪▪ ▪▪▪▪▪▪▪▪▪▪▪▪▪▪▪▪▪▪▪▪▪▪▪▪▪▪▪▪▪▪▪▪▪▪▪▪▪▪▪▪▪▪▪▪▪▪▪▪▪▪▪▪▪▪▪▪▪▪▪▪▪▪▪▪▪▪▪▪▪▪▪▪▪▪▪▪▪▪▪▪▪▪▪▪▪▪▪▪	▪▪▪▪▪▪▪▪▪▪▪▪▪▪▪▪▪▪▪▪▪▪ ▪▪▪▪▪▪▪▪▪▪▪▪▪▪▪▪▪▪▪▪▪▪	▪▪▪▪▪▪▪▪▪▪▪▪▪▪▪▪▪▪▪▪▪▪▪▪▪▪▪▪▪▪▪▪▪▪▪▪▪▪▪▪▪▪▪▪▪▪▪▪▪
▪▪▪▪▪▪▪▪▪▪▪▪▪▪▪▪▪▪▪▪▪▪	▪▪▪▪▪▪▪▪▪▪▪ ▪▪▪▪▪▪▪▪▪▪▪▪▪▪▪▪▪▪▪▪▪▪▪▪▪▪▪▪▪▪▪▪▪▪▪▪▪▪▪▪▪▪▪▪▪▪▪▪▪▪▪▪▪▪▪▪▪▪▪▪▪▪▪▪▪▪▪▪▪▪▪▪▪▪▪▪▪▪▪▪▪▪▪▪▪▪▪▪	▪▪▪▪▪▪▪▪▪▪▪▪▪▪▪▪▪▪▪▪▪▪▪▪▪▪▪▪▪▪ ▪▪▪▪▪▪▪▪▪▪▪▪▪▪▪▪▪▪▪▪▪▪▪▪▪▪▪▪▪▪ ▪▪▪▪▪▪▪▪▪▪▪▪▪▪▪▪▪▪▪▪▪▪▪▪▪▪▪▪▪▪▪▪▪▪▪▪▪▪▪▪▪▪▪▪▪▪▪▪▪▪▪▪▪▪▪▪▪▪▪▪▪▪▪▪▪▪▪▪▪▪▪▪▪▪▪▪▪▪▪▪▪▪▪▪▪▪▪▪	▪▪▪▪▪▪▪▪▪▪▪▪▪▪▪▪▪▪▪▪▪▪ ▪▪▪▪▪▪▪▪▪▪▪▪▪▪▪▪▪▪▪▪▪▪	▪▪▪▪▪▪▪▪▪▪▪▪▪▪▪▪▪▪▪▪▪▪▪▪▪▪▪▪▪▪▪▪▪▪▪▪▪▪▪▪▪▪▪▪▪▪▪▪▪
▪▪▪▪▪▪▪▪▪▪▪▪▪▪▪▪▪▪▪▪▪▪	▪▪▪▪▪▪▪▪▪▪▪ ▪▪▪▪▪▪▪▪▪▪▪▪▪▪▪▪▪▪▪▪▪▪▪▪▪▪▪▪▪▪▪▪▪▪▪▪▪▪▪▪▪▪▪▪▪▪▪▪▪▪▪▪▪▪▪▪▪▪▪▪▪▪▪▪▪▪▪▪▪▪▪▪▪▪▪▪▪▪▪▪▪▪▪▪▪▪▪▪	▪▪▪▪▪▪▪▪▪▪▪▪▪▪▪▪▪▪▪▪▪▪▪▪▪▪▪▪▪▪ ▪▪▪▪▪▪▪▪▪▪▪▪▪▪▪▪▪▪▪▪▪▪▪▪▪▪▪▪▪▪ ▪▪▪▪▪▪▪▪▪▪▪▪▪▪▪▪▪▪▪▪▪▪▪▪▪▪▪▪▪▪▪▪▪▪▪▪▪▪▪▪▪▪▪▪▪▪▪▪▪▪▪▪▪▪▪▪▪▪▪▪▪▪▪▪▪▪▪▪▪▪▪▪▪▪▪▪▪▪▪▪▪▪▪▪▪▪▪▪	▪▪▪▪▪▪▪▪▪▪▪▪▪▪▪▪▪▪▪▪▪▪ ▪▪▪▪▪▪▪▪▪▪▪▪▪▪▪▪▪▪▪▪▪▪	▪▪▪▪▪▪▪▪▪▪▪▪▪▪▪▪▪▪▪▪▪▪▪▪▪▪▪▪▪▪▪▪▪▪▪▪▪▪▪▪▪▪▪▪▪▪▪▪▪
▪▪▪▪▪▪▪▪▪▪▪▪▪▪▪▪▪▪▪▪▪▪	▪▪▪▪▪▪▪▪▪▪▪ ▪▪▪▪▪▪▪▪▪▪▪▪▪▪▪▪▪▪▪▪▪▪▪▪▪▪▪▪▪▪▪▪▪▪▪▪▪▪▪▪▪▪▪▪▪▪▪▪▪▪▪▪▪▪▪▪▪▪▪▪▪▪▪▪▪▪▪▪▪▪▪▪▪▪▪▪▪▪▪▪▪▪▪▪▪▪▪▪	▪▪▪▪▪▪▪▪▪▪▪▪▪▪▪▪▪▪▪▪▪▪▪▪▪▪▪▪▪▪ ▪▪▪▪▪▪▪▪▪▪▪▪▪▪▪▪▪▪▪▪▪▪▪▪▪▪▪▪▪▪ ▪▪▪▪▪▪▪▪▪▪▪▪▪▪▪▪▪▪▪▪▪▪▪▪▪▪▪▪▪▪▪▪▪▪▪▪▪▪▪▪▪▪▪▪▪▪▪▪▪▪▪▪▪▪▪▪▪▪▪▪▪▪▪▪▪▪▪▪▪▪▪▪▪▪▪▪▪▪▪▪▪▪▪▪▪▪▪▪	▪▪▪▪▪▪▪▪▪▪▪▪▪▪▪▪▪▪▪▪▪▪ ▪▪▪▪▪▪▪▪▪▪▪▪▪▪▪▪▪▪▪▪▪▪	▪▪▪▪▪▪▪▪▪▪▪▪▪▪▪▪▪▪▪▪▪▪▪▪▪▪▪▪▪▪▪▪▪▪▪▪▪▪▪▪▪▪▪▪▪▪▪▪▪
▪▪▪▪▪▪▪▪▪▪▪▪▪▪▪▪▪▪▪▪▪▪	▪▪▪▪▪▪▪▪▪▪▪ ▪▪▪▪▪▪▪▪▪▪▪▪▪▪▪▪▪▪▪▪▪▪▪▪▪▪▪▪▪▪▪▪▪▪▪▪▪▪▪▪▪▪▪▪▪▪▪▪▪▪▪▪▪▪▪▪▪▪▪▪▪▪▪▪▪▪▪▪▪▪▪▪▪▪▪▪▪▪▪▪▪▪▪▪▪▪▪▪	▪▪▪▪▪▪▪▪▪▪▪▪▪▪▪▪▪▪▪▪▪▪▪▪▪▪▪▪▪▪ ▪▪▪▪▪▪▪▪▪▪▪▪▪▪▪▪▪▪▪▪▪▪▪▪▪▪▪▪▪▪ ▪▪▪▪▪▪▪▪▪▪▪▪▪▪▪▪▪▪▪▪▪▪▪▪▪▪▪▪▪▪▪▪▪▪▪▪▪▪▪▪▪▪▪▪▪▪▪▪▪▪▪▪▪▪▪▪▪▪▪▪▪▪▪▪▪▪▪▪▪▪▪▪▪▪▪▪▪▪▪▪▪▪▪▪▪▪▪▪	▪▪▪▪▪▪▪▪▪▪▪▪▪▪▪▪▪▪▪▪▪▪ ▪▪▪▪▪▪▪▪▪▪▪▪▪▪▪▪▪▪▪▪▪▪	▪▪▪▪▪▪▪▪▪▪▪▪▪▪▪▪▪▪▪▪▪▪▪▪▪▪▪▪▪▪▪▪▪▪▪▪▪▪▪▪▪▪▪▪▪▪▪▪▪
▪▪▪▪▪▪▪▪▪▪▪▪▪▪▪▪▪▪▪▪▪▪	▪▪▪▪▪▪▪▪▪▪▪ ▪▪▪▪▪▪▪▪▪▪▪▪▪▪▪▪▪▪▪▪▪▪▪▪▪▪▪▪▪▪▪▪▪▪▪▪▪▪▪▪▪▪▪▪▪▪▪▪▪▪▪▪▪▪▪▪▪▪▪▪▪▪▪▪▪▪▪▪▪▪▪▪▪▪▪▪▪▪▪▪▪▪▪▪▪▪▪▪	▪▪▪▪▪▪▪▪▪▪▪▪▪▪▪▪▪▪▪▪▪▪▪▪▪▪▪▪▪▪ ▪▪▪▪▪▪▪▪▪▪▪▪▪▪▪▪▪▪▪▪▪▪▪▪▪▪▪▪▪▪ ▪▪▪▪▪▪▪▪▪▪▪▪▪▪▪▪▪▪▪▪▪▪▪▪▪▪▪▪▪▪▪▪▪▪▪▪▪▪▪▪▪▪▪▪▪▪▪▪▪▪▪▪▪▪▪▪▪▪▪▪▪▪▪▪▪▪▪▪▪▪▪▪▪▪▪▪▪▪▪▪▪▪▪▪▪▪▪▪	▪▪▪▪▪▪▪▪▪▪▪▪▪▪▪▪▪▪▪▪▪▪ ▪▪▪▪▪▪▪▪▪▪▪▪▪▪▪▪▪▪▪▪▪▪	▪▪▪▪▪▪▪▪▪▪▪▪▪▪▪▪▪▪▪▪▪▪▪▪▪▪▪▪▪▪▪▪▪▪▪▪▪▪▪▪▪▪▪▪▪▪▪▪▪
▪▪▪▪▪▪▪▪▪▪▪▪▪▪▪▪▪▪▪▪▪▪	▪▪▪▪▪▪▪▪▪▪▪ ▪▪▪▪▪▪▪▪▪▪▪▪▪▪▪▪▪▪▪▪▪▪▪▪▪▪▪▪▪▪▪▪▪▪▪▪▪▪▪▪▪▪▪▪▪▪▪▪▪▪▪▪▪▪▪▪▪▪▪▪▪▪▪▪▪▪▪▪▪▪▪▪▪▪▪▪▪▪▪▪▪▪▪▪▪▪▪▪	▪▪▪▪▪▪▪▪▪▪▪▪▪▪▪▪▪▪▪▪▪▪▪▪▪▪▪▪▪▪ ▪▪▪▪▪▪▪▪▪▪▪▪▪▪▪▪▪▪▪▪▪▪▪▪▪▪▪▪▪▪ ▪▪▪▪▪▪▪▪▪▪▪▪▪▪▪▪▪▪▪▪▪▪▪▪▪▪▪▪▪▪▪▪▪▪▪▪▪▪▪▪▪▪▪▪▪▪▪▪▪▪▪▪▪▪▪▪▪▪▪▪▪▪▪▪▪▪▪▪▪▪▪▪▪▪▪▪▪▪▪▪▪▪▪▪▪▪▪▪	▪▪▪▪▪▪▪▪▪▪▪▪▪▪▪▪▪▪▪▪▪▪ ▪▪▪▪▪▪▪▪▪▪▪▪▪▪▪▪▪▪▪▪▪▪	▪▪▪▪▪▪▪▪▪▪▪▪▪▪▪▪▪▪▪▪▪▪▪▪▪▪▪▪▪▪▪▪▪▪▪▪▪▪▪▪▪▪▪▪▪▪▪▪▪
▪▪▪▪▪▪▪▪▪▪▪▪▪▪▪▪▪▪▪▪▪▪	▪▪▪▪▪▪▪▪▪▪▪ ▪▪▪▪▪▪▪▪▪▪▪▪▪▪▪▪▪▪▪▪▪▪▪▪▪▪▪▪▪▪▪▪▪▪▪▪▪▪▪▪▪▪▪▪▪▪▪▪▪▪▪▪▪▪▪▪▪▪▪▪▪▪▪▪▪▪▪▪▪▪▪▪▪▪▪▪▪▪▪▪▪▪▪▪▪▪▪▪	▪▪▪▪▪▪▪▪▪▪▪▪▪▪▪▪▪▪▪▪▪▪▪▪▪▪▪▪▪▪ ▪▪▪▪▪▪▪▪▪▪▪▪▪▪▪▪▪▪▪▪▪▪▪▪▪▪▪▪▪▪ ▪▪▪▪▪▪▪▪▪▪▪▪▪▪▪▪▪▪▪▪▪▪▪▪▪▪▪▪▪▪▪▪▪▪▪▪▪▪▪▪▪▪▪▪▪▪▪▪▪▪▪▪▪▪▪▪▪▪▪▪▪▪▪▪▪▪▪▪▪▪▪▪▪▪▪▪▪▪▪▪▪▪▪▪▪▪▪▪	▪▪▪▪▪▪▪▪▪▪▪▪▪▪▪▪▪▪▪▪▪▪ ▪▪▪▪▪▪▪▪▪▪▪▪▪▪▪▪▪▪▪▪▪▪	▪▪▪▪▪▪▪▪▪▪▪▪▪▪▪▪▪▪▪▪▪▪▪▪▪▪▪▪▪▪▪▪▪▪▪▪▪▪▪▪▪▪▪▪▪▪▪▪▪
▪▪▪▪▪▪▪▪▪▪▪▪▪▪▪▪▪▪▪▪▪▪	▪▪▪▪▪▪▪▪▪▪▪ ▪▪▪▪▪▪▪▪▪▪▪▪▪▪▪▪▪▪▪▪▪▪▪▪▪▪▪▪▪▪▪▪▪▪▪▪▪▪▪▪▪▪▪▪▪▪▪▪▪▪▪▪▪▪▪▪▪▪▪▪▪▪▪▪▪▪▪▪▪▪▪▪▪▪▪▪▪▪▪▪▪▪▪▪▪▪▪▪	▪▪▪▪▪▪▪▪▪▪▪▪▪▪▪▪▪▪▪▪▪▪▪▪▪▪▪▪▪▪ ▪▪▪▪▪▪▪▪▪▪▪▪▪▪▪▪▪▪▪▪▪▪▪▪▪▪▪▪▪▪ ▪▪▪▪▪▪▪▪▪▪▪▪▪▪▪▪▪▪▪▪▪▪▪▪▪▪▪▪▪▪▪▪▪▪▪▪▪▪▪▪▪▪▪▪▪▪▪▪▪▪▪▪▪▪▪▪▪▪▪▪▪▪▪▪▪▪▪▪▪▪▪▪▪▪▪▪▪▪▪▪▪▪▪▪▪▪▪▪	▪▪▪▪▪▪▪▪▪▪▪▪▪▪▪▪▪▪▪▪▪▪ ▪▪▪▪▪▪▪▪▪▪▪▪▪▪▪▪▪▪▪▪▪▪	▪▪▪▪▪▪▪▪▪▪▪▪▪▪▪▪▪▪▪▪▪▪▪▪▪▪▪▪▪▪▪▪▪▪▪▪▪▪▪▪▪▪▪▪▪▪▪▪▪
▪▪▪▪▪▪▪▪▪▪▪▪▪▪▪▪▪▪▪▪▪▪	▪▪▪▪▪▪▪▪▪▪▪ ▪▪▪▪▪▪▪▪▪▪▪▪▪▪▪▪▪▪▪▪▪▪▪▪▪▪▪▪▪▪▪▪▪▪▪▪▪▪▪▪▪▪▪▪▪▪▪▪▪▪▪▪▪▪▪▪▪▪▪▪▪▪▪▪▪▪▪▪▪▪▪▪▪▪▪▪▪▪▪▪▪▪▪▪▪▪▪▪	▪▪▪▪▪▪▪▪▪▪▪▪▪▪▪▪▪▪▪▪▪▪▪▪▪▪▪▪▪▪ ▪▪▪▪▪▪▪▪▪▪▪▪▪▪▪▪▪▪▪▪▪▪▪▪▪▪▪▪▪▪ ▪▪▪▪▪▪▪▪▪▪▪▪▪▪▪▪▪▪▪▪▪▪▪▪▪▪▪▪▪▪▪▪▪▪▪▪▪▪▪▪▪▪▪▪▪▪▪▪▪▪▪▪▪▪▪▪▪▪▪▪▪▪▪▪▪▪▪▪▪▪▪▪▪▪▪▪▪▪▪▪▪▪▪▪▪▪▪▪	▪▪▪▪▪▪▪▪▪▪▪▪▪▪▪▪▪▪▪▪▪▪ ▪▪▪▪▪▪▪▪▪▪▪▪▪▪▪▪▪▪▪▪▪▪	▪▪▪▪▪▪▪▪▪▪▪▪▪▪▪▪▪▪▪▪▪▪▪▪▪▪▪▪▪▪▪▪▪▪▪▪▪▪▪▪▪▪▪▪▪▪▪▪▪
▪▪▪▪▪▪▪▪▪▪▪▪▪▪▪▪▪▪▪▪▪▪	▪▪▪▪▪▪▪▪▪▪▪ ▪▪▪▪▪▪▪▪▪▪▪▪▪▪▪▪▪▪▪▪▪▪▪▪▪▪▪▪▪▪▪▪▪▪▪▪▪▪▪▪▪▪▪▪▪▪▪▪▪▪▪▪▪▪▪▪▪▪▪▪▪▪▪▪▪▪▪▪▪▪▪▪▪▪▪▪▪▪▪▪▪▪▪▪▪▪▪▪	▪▪▪▪▪▪▪▪▪▪▪▪▪▪▪▪▪▪▪▪▪▪▪▪▪▪▪▪▪▪ ▪▪▪▪▪▪▪▪▪▪▪▪▪▪▪▪▪▪▪▪▪▪▪▪▪▪▪▪▪▪ ▪▪▪▪▪▪▪▪▪▪▪▪▪▪▪▪▪▪▪▪▪▪▪▪▪▪▪▪▪▪▪▪▪▪▪▪▪▪▪▪▪▪▪▪▪▪▪▪▪▪▪▪▪▪▪▪▪▪▪▪▪▪▪▪▪▪▪▪▪▪▪▪▪▪▪▪▪▪▪▪▪▪▪▪▪▪▪▪	▪▪▪▪▪▪▪▪▪▪▪▪▪▪▪▪▪▪▪▪▪▪ ▪▪▪▪▪▪▪▪▪▪▪▪▪▪▪▪▪▪▪▪▪▪	▪▪▪▪▪▪▪▪▪▪▪▪▪▪▪▪▪▪▪▪▪▪▪▪▪▪▪▪▪▪▪▪▪▪▪▪▪▪▪▪▪▪▪▪▪▪▪▪▪
▪▪▪▪▪▪▪▪▪▪▪▪▪▪▪▪▪▪▪▪▪▪	▪▪▪▪▪▪▪▪▪▪▪ ▪▪▪▪▪▪▪▪▪▪▪▪▪▪▪▪▪▪▪▪▪▪▪▪▪▪▪▪▪▪▪▪▪▪▪▪▪▪▪▪▪▪▪▪▪▪▪▪▪▪▪▪▪▪▪▪▪▪▪▪▪▪▪▪▪▪▪▪▪▪▪▪▪▪▪▪▪▪▪▪▪▪▪▪▪▪▪▪	▪▪▪▪▪▪▪▪▪▪▪▪▪▪▪▪▪▪▪▪▪▪▪▪▪▪▪▪▪▪ ▪▪▪▪▪▪▪▪▪▪▪▪▪▪▪▪▪▪▪▪▪▪▪▪▪▪▪▪▪▪ ▪▪▪▪▪▪▪▪▪▪▪▪▪▪▪▪▪▪▪▪▪▪▪▪▪▪▪▪▪▪▪▪▪▪▪▪▪▪▪▪▪▪▪▪▪▪▪▪▪▪▪▪▪▪▪▪▪▪▪▪▪▪▪▪▪▪▪▪▪▪▪▪▪▪▪▪▪▪▪▪▪▪▪▪▪▪▪▪	▪▪▪▪▪▪▪▪▪▪▪▪▪▪▪▪▪▪▪▪▪▪ ▪▪▪▪▪▪▪▪▪▪▪▪▪▪▪▪▪▪▪▪▪▪	▪▪▪▪▪▪▪▪▪▪▪▪▪▪▪▪▪▪▪▪▪▪▪▪▪▪▪▪▪▪▪▪▪▪▪▪▪▪▪▪▪▪▪▪▪▪▪▪▪
▪▪▪▪▪▪▪▪▪▪▪▪▪▪▪▪▪▪▪▪▪▪	▪▪▪▪▪▪▪▪▪▪▪ ▪▪▪▪▪▪▪▪▪▪▪▪▪▪▪▪▪▪▪▪▪▪▪▪▪▪▪▪▪▪▪▪▪▪▪▪▪▪▪▪▪▪▪▪▪▪▪▪▪▪▪▪▪▪▪▪▪▪▪▪▪▪▪▪▪▪▪▪▪▪▪▪▪▪▪▪▪▪▪▪▪▪▪▪▪▪▪▪	▪▪▪▪▪▪▪▪▪▪▪▪▪▪▪▪▪▪▪▪▪▪▪▪▪▪▪▪▪▪ ▪▪▪▪▪▪▪▪▪▪▪▪▪▪▪▪▪▪▪▪▪▪▪▪▪▪▪▪▪▪ ▪▪▪▪▪▪▪▪▪▪▪▪▪▪▪▪▪▪▪▪▪▪▪▪▪▪▪▪▪▪▪▪▪▪▪▪▪▪▪▪▪▪▪▪▪▪▪▪▪▪▪▪▪▪▪▪▪▪▪▪▪▪▪▪▪▪▪▪▪▪▪▪▪▪▪▪▪▪▪▪▪▪▪▪▪▪▪▪	▪▪▪▪▪▪▪▪▪▪▪▪▪▪▪▪▪▪▪▪▪▪ ▪▪▪▪▪▪▪▪▪▪▪▪▪▪▪▪▪▪▪▪▪▪	▪▪▪▪▪▪▪▪▪▪▪▪▪▪▪▪▪▪▪▪▪▪▪▪▪▪▪▪▪▪▪▪▪▪▪▪▪▪▪▪▪▪▪▪▪▪▪▪▪
▪▪▪▪▪▪▪▪▪▪▪▪▪▪▪▪▪▪▪▪▪▪	▪▪▪▪▪▪▪▪▪▪▪ ▪▪▪▪▪▪▪▪▪▪▪▪▪▪▪▪▪▪▪▪▪▪▪▪▪▪▪▪▪▪▪▪▪▪▪▪▪▪▪▪▪▪▪▪▪▪▪▪▪▪▪▪▪▪▪▪▪▪▪▪▪▪▪▪▪▪▪▪▪▪▪▪▪▪▪▪▪▪▪▪▪▪▪▪▪▪▪▪	▪▪▪▪▪▪▪▪▪▪▪▪▪▪▪▪▪▪▪▪▪▪▪▪▪▪▪▪▪▪ ▪▪▪▪▪▪▪▪▪▪▪▪▪▪▪▪▪▪▪▪▪▪▪▪▪▪▪▪▪▪ ▪▪▪▪▪▪▪▪▪▪▪▪▪▪▪▪▪▪▪▪▪▪▪▪▪▪▪▪▪▪▪▪▪▪▪▪▪▪▪▪▪▪▪▪▪▪▪▪▪▪▪▪▪▪▪▪▪▪▪▪▪▪▪▪▪▪▪▪▪▪▪▪▪▪▪▪▪▪▪▪▪▪▪▪▪▪▪▪	▪▪▪▪▪▪▪▪▪▪▪▪▪▪▪▪▪▪▪▪▪▪ ▪▪▪▪▪▪▪▪▪▪▪▪▪▪▪▪▪▪▪▪▪▪	▪▪▪▪▪▪▪▪▪▪▪▪▪▪▪▪▪▪▪▪▪▪▪▪▪▪▪▪▪▪▪▪▪▪▪▪▪▪▪▪▪▪▪▪▪▪▪▪▪
▪▪▪▪▪▪▪▪▪▪▪▪▪▪▪▪▪▪▪▪▪▪	▪▪▪▪▪▪▪▪▪▪▪ ▪▪▪▪▪▪▪▪▪▪▪▪▪▪▪▪▪▪▪▪▪▪▪▪▪▪▪▪▪▪▪▪▪▪▪▪▪▪▪▪▪▪▪▪▪▪▪▪▪▪▪▪▪▪▪▪▪▪▪▪▪▪▪▪▪▪▪▪▪▪▪▪▪▪▪▪▪▪▪▪▪▪▪▪▪▪▪▪	▪▪▪▪▪▪▪▪▪▪▪▪▪▪▪▪▪▪▪▪▪▪▪▪▪▪▪▪▪▪ ▪▪▪▪▪▪▪▪▪▪▪▪▪▪▪▪▪▪▪▪▪▪▪▪▪▪▪▪▪▪ ▪▪▪▪▪▪▪▪▪▪▪▪▪▪▪▪▪▪▪▪▪▪▪▪▪▪▪▪▪▪▪▪▪▪▪▪▪▪▪▪▪▪▪▪▪▪▪▪▪▪▪▪▪▪▪▪▪▪▪▪▪▪▪▪▪▪▪▪▪▪▪▪▪▪▪▪▪▪▪▪▪▪▪▪▪▪▪▪	▪▪▪▪▪▪▪▪▪▪▪▪▪▪▪▪▪▪▪▪▪▪ ▪▪▪▪▪▪▪▪▪▪▪▪▪▪▪▪▪▪▪▪▪▪	▪▪▪▪▪▪▪▪▪▪▪▪▪▪▪▪▪▪▪▪▪▪▪▪▪▪▪▪▪▪▪▪▪▪▪▪▪▪▪▪▪▪▪▪▪▪▪▪▪
▪▪▪▪▪▪▪▪▪▪▪▪▪▪▪▪▪▪▪▪▪▪	▪▪▪▪▪▪▪▪▪▪▪ ▪▪▪▪▪▪▪▪▪▪▪▪▪▪▪▪▪▪▪▪▪▪▪▪▪▪▪▪▪▪▪▪▪▪▪▪▪▪▪▪▪▪▪▪▪▪▪▪▪▪▪▪▪▪▪▪▪▪▪▪▪▪▪▪▪▪▪▪▪▪▪▪▪▪▪▪▪▪▪▪▪▪▪▪▪▪▪▪	▪▪▪▪▪▪▪▪▪▪▪▪▪▪▪▪▪▪▪▪▪▪▪▪▪▪▪▪▪▪ ▪▪▪▪▪▪▪▪▪▪▪▪▪▪▪▪▪▪▪▪▪▪▪▪▪▪▪▪▪▪ ▪▪▪▪▪▪▪▪▪▪▪▪▪▪▪▪▪▪▪▪▪▪▪▪▪▪▪▪▪▪▪▪▪▪▪▪▪▪▪▪▪▪▪▪▪▪▪▪▪▪▪▪▪▪▪▪▪▪▪▪▪▪▪▪▪▪▪▪▪▪▪▪▪▪▪▪▪▪▪▪▪▪▪▪▪▪▪▪	▪▪▪▪▪▪▪▪▪▪▪▪▪▪▪▪▪▪▪▪▪▪ ▪▪▪▪▪▪▪▪▪▪▪▪▪▪▪▪▪▪▪▪▪▪	▪▪▪▪▪▪▪▪▪▪▪▪▪▪▪▪▪▪▪▪▪▪▪▪▪▪▪▪▪▪▪▪▪▪▪▪▪▪▪▪▪▪▪▪▪▪▪▪▪
▪▪▪▪▪▪▪▪▪▪▪▪▪▪▪▪▪▪▪▪▪▪	▪▪▪▪▪▪▪▪▪▪▪ ▪▪▪▪▪▪▪▪▪▪▪▪▪▪▪▪▪▪▪▪▪▪▪▪▪▪▪▪▪▪▪▪▪▪▪▪▪▪▪▪▪▪▪▪▪▪▪▪▪▪▪▪▪▪▪▪▪▪▪▪▪▪▪▪▪▪▪▪▪▪▪▪▪▪▪▪▪▪▪▪▪▪▪▪▪▪▪▪	▪▪▪▪▪▪▪▪▪▪▪▪▪▪▪▪▪▪▪▪▪▪▪▪▪▪▪▪▪▪ ▪▪▪▪▪▪▪▪▪▪▪▪▪▪▪▪▪▪▪▪▪▪▪▪▪▪▪▪▪▪ ▪▪▪▪▪▪▪▪▪▪▪▪▪▪▪▪▪▪▪▪▪▪▪▪▪▪▪▪▪▪▪▪▪▪▪▪▪▪▪▪▪▪▪▪▪▪▪▪▪▪▪▪▪▪▪▪▪▪▪▪▪▪▪▪▪▪▪▪▪▪▪▪▪▪▪▪▪▪▪▪▪▪▪▪▪▪▪▪	▪▪▪▪▪▪▪▪▪▪▪▪▪▪▪▪▪▪▪▪▪▪ ▪▪▪▪▪▪▪▪▪▪▪▪▪▪▪▪▪▪▪▪▪▪	▪▪▪▪▪▪▪▪▪▪▪▪▪▪▪▪▪▪▪▪▪▪▪▪▪▪▪▪▪▪▪▪▪▪▪▪▪▪▪▪▪▪▪▪▪▪▪▪▪
▪▪▪▪▪▪▪▪▪▪▪▪▪▪▪▪▪▪▪▪▪▪	▪▪▪▪▪▪▪▪▪▪▪ ▪▪▪▪▪▪▪▪▪▪▪▪▪▪▪▪▪▪▪▪▪▪▪▪▪▪▪▪▪▪▪▪▪▪▪▪▪▪▪▪▪▪▪▪▪▪▪▪▪▪▪▪▪▪▪▪▪▪▪▪▪▪▪▪▪▪▪▪▪▪▪▪▪▪▪▪▪▪▪▪▪▪▪▪▪▪▪▪	▪▪▪▪▪▪▪▪▪▪▪▪▪▪▪▪▪▪▪▪▪▪▪▪▪▪▪▪▪▪ ▪▪▪▪▪▪▪▪▪▪▪▪▪▪▪▪▪▪▪▪▪▪▪▪▪▪▪▪▪▪ ▪▪▪▪▪▪▪▪▪▪▪▪▪▪▪▪▪▪▪▪▪▪▪▪▪▪▪▪▪▪▪▪▪▪▪▪▪▪▪▪▪▪▪▪▪▪▪▪▪▪▪▪▪▪▪▪▪▪▪▪▪▪▪▪▪▪▪▪▪▪▪▪▪▪▪▪▪▪▪▪▪▪▪▪▪▪▪▪	▪▪▪▪▪▪▪▪▪▪▪▪▪▪▪▪▪▪▪▪▪▪ ▪▪▪▪▪▪▪▪▪▪▪▪▪▪▪▪▪▪▪▪▪▪	▪▪▪▪▪▪▪▪▪▪▪▪▪▪▪▪▪▪▪▪▪▪▪▪▪▪▪▪▪▪▪▪▪▪▪▪▪▪▪▪▪▪▪▪▪▪▪▪▪
▪▪▪▪▪▪▪▪▪▪▪▪▪▪▪▪▪▪▪▪▪▪	▪▪▪▪▪▪▪▪▪▪▪ ▪▪▪▪▪▪▪▪▪▪▪▪▪▪▪▪▪▪▪▪▪▪▪▪▪▪▪▪▪▪▪▪▪▪▪▪▪▪▪▪▪▪▪▪▪▪▪▪▪▪▪▪▪▪▪▪▪▪▪▪▪▪▪▪▪▪▪▪▪▪▪▪▪▪▪▪▪▪▪▪▪▪▪▪▪▪▪▪	▪▪▪▪▪▪▪▪▪▪▪▪▪▪▪▪▪▪▪▪▪▪▪▪▪▪▪▪▪▪ ▪▪▪▪▪▪▪▪▪▪▪▪▪▪▪▪▪▪▪▪▪▪▪▪▪▪▪▪▪▪ ▪▪▪▪▪▪▪▪▪▪▪▪▪▪▪▪▪▪▪▪▪▪▪▪▪▪▪▪▪▪▪▪▪▪▪▪▪▪▪▪▪▪▪▪▪▪▪▪▪▪▪▪▪▪▪▪▪▪▪▪▪▪▪▪▪▪▪▪▪▪▪▪▪▪▪▪▪▪▪▪▪▪▪▪▪▪▪▪	▪▪▪▪▪▪▪▪▪▪▪▪▪▪▪▪▪▪▪▪▪▪ ▪▪▪▪▪▪▪▪▪▪▪▪▪▪▪▪▪▪▪▪▪▪	▪▪▪▪▪▪▪▪▪▪▪▪▪▪▪▪▪▪▪▪▪▪▪▪▪▪▪▪▪▪▪▪▪▪▪▪▪▪▪▪▪▪▪▪▪▪▪▪▪
▪▪▪▪▪▪▪▪▪▪▪▪▪▪▪▪▪▪▪▪▪▪	▪▪▪▪▪▪▪▪▪▪▪ ▪▪▪▪▪▪▪▪▪▪▪▪▪▪▪▪▪▪▪▪▪▪▪▪▪▪▪▪▪▪▪▪▪▪▪▪▪▪▪▪▪▪▪▪▪▪▪▪▪▪▪▪▪▪▪▪▪▪▪▪▪▪▪▪▪▪▪▪▪▪▪▪▪▪▪▪▪▪▪▪▪▪▪▪▪▪▪▪	▪▪▪▪▪▪▪▪▪▪▪▪▪▪▪▪▪▪▪▪▪▪▪▪▪▪▪▪▪▪ ▪▪▪▪▪▪▪▪▪▪▪▪▪▪▪▪▪▪▪▪▪▪▪▪▪▪▪▪▪▪ ▪▪▪▪▪▪▪▪▪▪▪▪▪▪▪▪▪▪▪▪▪▪▪▪▪▪▪▪▪▪▪▪▪▪▪▪▪▪▪▪▪▪▪▪▪▪▪▪▪▪▪▪▪▪▪▪▪▪▪▪▪▪▪▪▪▪▪▪▪▪▪▪▪▪▪▪▪▪▪▪▪▪▪▪▪▪▪▪	▪▪▪▪▪▪▪▪▪▪▪▪▪▪▪▪▪▪▪▪▪▪ ▪▪▪▪▪▪▪▪▪▪▪▪▪▪▪▪▪▪▪▪▪▪	▪▪▪▪▪▪▪▪▪▪▪▪▪▪▪▪▪▪▪▪▪▪▪▪▪▪▪▪▪▪▪▪▪▪▪▪▪▪▪▪▪▪▪▪▪▪▪▪▪
▪▪▪▪▪▪▪▪▪▪▪▪▪▪▪▪▪▪▪▪▪▪	▪▪▪▪▪▪▪▪▪▪▪ ▪▪▪▪▪▪▪▪▪▪▪▪▪▪▪▪▪▪▪▪▪▪▪▪▪▪▪▪▪▪▪▪▪▪▪▪▪▪▪▪▪▪▪▪▪▪▪▪▪▪▪▪▪▪▪▪▪▪▪▪▪▪▪▪▪▪▪▪▪▪▪▪▪▪▪▪▪▪▪▪▪▪▪▪▪▪▪▪	▪▪▪▪▪▪▪▪▪▪▪▪▪▪▪▪▪▪▪▪▪▪▪▪▪▪▪▪▪▪ ▪▪▪▪▪▪▪▪▪▪▪▪▪▪▪▪▪▪▪▪▪▪▪▪▪▪▪▪▪▪ ▪▪▪▪▪▪▪▪▪▪▪▪▪▪▪▪▪▪▪▪▪▪▪▪▪▪▪▪▪▪▪▪▪▪▪▪▪▪▪▪▪▪▪▪▪▪▪▪▪▪▪▪▪▪▪▪▪▪▪▪▪▪▪▪▪▪▪▪▪▪▪▪▪▪▪▪▪▪▪▪▪▪▪▪▪▪▪▪	▪▪▪▪▪▪▪▪▪▪▪▪▪▪▪▪▪▪▪▪▪▪ ▪▪▪▪▪▪▪▪▪▪▪▪▪▪▪▪▪▪▪▪▪▪	▪▪▪▪▪▪▪▪▪▪▪▪▪▪▪▪▪▪▪▪▪▪▪▪▪▪▪▪▪▪▪▪▪▪▪▪▪▪▪▪▪▪▪▪▪▪▪▪▪
▪▪▪▪▪▪▪▪▪▪▪▪▪▪▪▪▪▪▪▪▪▪	▪▪▪▪▪▪▪▪▪▪▪ ▪▪▪▪▪▪▪▪▪▪▪▪▪▪▪▪▪▪▪▪▪▪▪▪▪▪▪▪▪▪▪▪▪▪▪▪▪▪▪▪▪▪▪▪▪▪▪▪▪▪▪▪▪▪▪▪▪▪▪▪▪▪▪▪▪▪▪▪▪▪▪▪▪▪▪▪▪▪▪▪▪▪▪▪▪▪▪▪	▪▪▪▪▪▪▪▪▪▪▪▪▪▪▪▪▪▪▪▪▪▪▪▪▪▪▪▪▪▪ ▪▪▪▪▪▪▪▪▪▪▪▪▪▪▪▪▪▪▪▪▪▪▪▪▪▪▪▪▪▪ ▪▪▪▪▪▪▪▪▪▪▪▪▪▪▪▪▪▪▪▪▪▪▪▪▪▪▪▪▪▪▪▪▪▪▪▪▪▪▪▪▪▪▪▪▪▪▪▪▪▪▪▪▪▪▪▪▪▪▪▪▪▪▪▪▪▪▪▪▪▪▪▪▪▪▪▪▪▪▪▪▪▪▪▪▪▪▪▪	▪▪▪▪▪▪▪▪▪▪▪▪▪▪▪▪▪▪▪▪▪▪ ▪▪▪▪▪▪▪▪▪▪▪▪▪▪▪▪▪▪▪▪▪▪	▪▪▪▪▪▪▪▪▪▪▪▪▪▪▪▪▪▪▪▪▪▪▪▪▪▪▪▪▪▪▪▪▪▪▪▪▪▪▪▪▪▪▪▪▪▪▪▪▪
▪▪▪▪▪▪▪▪▪▪▪▪▪▪▪▪▪▪▪▪▪▪	▪▪▪▪▪▪▪▪▪▪▪ ▪▪▪▪▪▪▪▪▪▪▪▪▪▪▪▪▪▪▪▪▪▪▪▪▪▪▪▪▪▪▪▪▪▪▪▪▪▪▪▪▪▪▪▪▪▪▪▪▪▪▪▪▪▪▪▪▪▪▪▪▪▪▪▪▪▪▪▪▪▪▪▪▪▪▪▪▪▪▪▪▪▪▪▪▪▪▪▪	▪▪▪▪▪▪▪▪▪▪▪▪▪▪▪▪▪▪▪▪▪▪▪▪▪▪▪▪▪▪ ▪▪▪▪▪▪▪▪▪▪▪▪▪▪▪▪▪▪▪▪▪▪▪▪▪▪▪▪▪▪ ▪▪▪▪▪▪▪▪▪▪▪▪▪▪▪▪▪▪▪▪▪▪▪▪▪▪▪▪▪▪▪▪▪▪▪▪▪▪▪▪▪▪▪▪▪▪▪▪▪▪▪▪▪▪▪▪▪▪▪▪▪▪▪▪▪▪▪▪▪▪▪▪▪▪▪▪▪▪▪▪▪▪▪▪▪▪▪▪	▪▪▪▪▪▪▪▪▪▪▪▪▪▪▪▪▪▪▪▪▪▪ ▪▪▪▪▪▪▪▪▪▪▪▪▪▪▪▪▪▪▪▪▪▪	▪▪▪▪▪▪▪▪▪▪▪▪▪▪▪▪▪▪▪▪▪▪▪▪▪▪▪▪▪▪▪▪▪▪▪▪▪▪▪▪▪▪▪▪▪▪▪▪▪
▪▪▪▪▪▪▪▪▪▪▪▪▪▪▪▪▪▪▪▪▪▪	▪▪▪▪▪▪▪▪▪▪▪ ▪▪▪▪▪▪▪▪▪▪▪▪▪▪▪▪▪▪▪▪▪▪▪▪▪▪▪▪▪▪▪▪▪▪▪▪▪▪▪▪▪▪▪▪▪▪▪▪▪▪▪▪▪▪▪▪▪▪▪▪▪▪▪▪▪▪▪▪▪▪▪▪▪▪▪▪▪▪▪▪▪▪▪▪▪▪▪▪	▪▪▪▪▪▪▪▪▪▪▪▪▪▪▪▪▪▪▪▪▪▪▪▪▪▪▪▪▪▪ ▪▪▪▪▪▪▪▪▪▪▪▪▪▪▪▪▪▪▪▪▪▪▪▪▪▪▪▪▪▪ ▪▪▪▪▪▪▪▪▪▪▪▪▪▪▪▪▪▪▪▪▪▪▪▪▪▪▪▪▪▪▪▪▪▪▪▪▪▪▪▪▪▪▪▪▪▪▪▪▪▪▪▪▪▪▪▪▪▪▪▪▪▪▪▪▪▪▪▪▪▪▪▪▪▪▪▪▪▪▪▪▪▪▪▪▪▪▪▪	▪▪▪▪▪▪▪▪▪▪▪▪▪▪▪▪▪▪▪▪▪▪ ▪▪▪▪▪▪▪▪▪▪▪▪▪▪▪▪▪▪▪▪▪▪	▪▪▪▪▪▪▪▪▪▪▪▪▪▪▪▪▪▪▪▪▪▪▪▪▪▪▪▪▪▪▪▪▪▪▪▪▪▪▪▪▪▪▪▪▪▪▪▪▪
▪▪▪▪▪▪▪▪▪▪▪▪▪▪▪▪▪▪▪▪▪▪	▪▪▪▪▪▪▪▪▪▪▪ ▪▪▪▪▪▪▪▪▪▪▪▪▪▪▪▪▪▪▪▪▪▪▪▪▪▪▪▪▪▪▪▪▪▪▪▪▪▪▪▪▪▪▪▪▪▪▪▪▪▪▪▪▪▪▪▪▪▪▪▪▪▪▪▪▪▪▪▪▪▪▪▪▪▪▪▪▪▪▪▪▪▪▪▪▪▪▪▪	▪▪▪▪▪▪▪▪▪▪▪▪▪▪▪▪▪▪▪▪▪▪▪▪▪▪▪▪▪▪ ▪▪▪▪▪▪▪▪▪▪▪▪▪▪▪▪▪▪▪▪▪▪▪▪▪▪▪▪▪▪ ▪▪▪▪▪▪▪▪▪▪▪▪▪▪▪▪▪▪▪▪▪▪▪▪▪▪▪▪▪▪▪▪▪▪▪▪▪▪▪▪▪▪▪▪▪▪▪▪▪▪▪▪▪▪▪▪▪▪▪▪▪▪▪▪▪▪▪▪▪▪▪▪▪▪▪▪▪▪▪▪▪▪▪▪▪▪▪▪	▪▪▪▪▪▪▪▪▪▪▪▪▪▪▪▪▪▪▪▪▪▪ ▪▪▪▪▪▪▪▪▪▪▪▪▪▪▪▪▪▪▪▪▪▪	▪▪▪▪▪▪▪▪▪▪▪▪▪▪▪▪▪▪▪▪▪▪▪▪▪▪▪▪▪▪▪▪▪▪▪▪▪▪▪▪▪▪▪▪▪▪▪▪▪
▪▪▪▪▪▪▪▪▪▪▪▪▪▪▪▪▪▪▪▪▪▪	▪▪▪▪▪▪▪▪▪▪▪ ▪▪▪▪▪▪▪▪▪▪▪▪▪▪▪▪▪▪▪▪▪▪▪▪▪▪▪▪▪▪▪▪▪▪▪▪▪▪▪▪▪▪▪▪▪▪▪▪▪▪▪▪▪▪▪▪▪▪▪▪▪▪▪▪▪▪▪▪▪▪▪▪▪▪▪▪▪▪▪▪▪▪▪▪▪▪▪▪	▪▪▪▪▪▪▪▪▪▪▪▪▪▪▪▪▪▪▪▪▪▪▪▪▪▪▪▪▪▪ ▪▪▪▪▪▪▪▪▪▪▪▪▪▪▪▪▪▪▪▪▪▪▪▪▪▪▪▪▪▪ ▪▪▪▪▪▪▪▪▪▪▪▪▪▪▪▪▪▪▪▪▪▪▪▪▪▪▪▪▪▪▪▪▪▪▪▪▪▪▪▪▪▪▪▪▪▪▪▪▪▪▪▪▪▪▪▪▪▪▪▪▪▪▪▪▪▪▪▪▪▪▪▪▪▪▪▪▪▪▪▪▪▪▪▪▪▪▪▪	▪▪▪▪▪▪▪▪▪▪▪▪▪▪▪▪▪▪▪▪▪▪ ▪▪▪▪▪▪▪▪▪▪▪▪▪▪▪▪▪▪▪▪▪▪	▪▪▪▪▪▪▪▪▪▪▪▪▪▪▪▪▪▪▪▪▪▪▪▪▪▪▪▪▪▪▪▪▪▪▪▪▪▪▪▪▪▪▪▪▪▪▪▪▪
▪▪▪▪▪▪▪▪▪▪▪▪▪▪▪▪▪▪▪▪▪▪	▪▪▪▪▪▪▪▪▪▪▪ ▪▪▪▪▪▪▪▪▪▪▪▪▪▪▪▪▪▪▪▪▪▪▪▪▪▪▪▪▪▪▪▪▪▪▪▪▪▪▪▪▪▪▪▪▪▪▪▪▪▪▪▪▪▪▪▪▪▪▪▪▪▪▪▪▪▪▪▪▪▪▪▪▪▪▪▪▪▪▪▪▪▪▪▪▪▪▪▪	▪▪▪▪▪▪▪▪▪▪▪▪▪▪▪▪▪▪▪▪▪▪▪▪▪▪▪▪▪▪ ▪▪▪▪▪▪▪▪▪▪▪▪▪▪▪▪▪▪▪▪▪▪▪▪▪▪▪▪▪▪ ▪▪▪▪▪▪▪▪▪▪▪▪▪▪▪▪▪▪▪▪▪▪▪▪▪▪▪▪▪▪▪▪▪▪▪▪▪▪▪▪▪▪▪▪▪▪▪▪▪▪▪▪▪▪▪▪▪▪▪▪▪▪▪▪▪▪▪▪▪▪▪▪▪▪▪▪▪▪▪▪▪▪▪▪▪▪▪▪	▪▪▪▪▪▪▪▪▪▪▪▪▪▪▪▪▪▪▪▪▪▪ ▪▪▪▪▪▪▪▪▪▪▪▪▪▪▪▪▪▪▪▪▪▪	▪▪▪▪▪▪▪▪▪▪▪▪▪▪▪▪▪▪▪▪▪▪▪▪▪▪▪▪▪▪▪▪▪▪▪▪▪▪▪▪▪▪▪▪▪▪▪▪▪
▪▪▪▪▪▪▪▪▪▪▪▪▪▪▪▪▪▪▪▪▪▪	▪▪▪▪▪▪▪▪▪▪▪ ▪▪▪▪▪▪▪▪▪▪▪▪▪▪▪▪▪▪▪▪▪▪▪▪▪▪▪▪▪▪▪▪▪▪▪▪▪▪▪▪▪▪▪▪▪▪▪▪▪▪▪▪▪▪▪▪▪▪▪▪▪▪▪▪▪▪▪▪▪▪▪▪▪▪▪▪▪▪▪▪▪▪▪▪▪▪▪▪	▪▪▪▪▪▪▪▪▪▪▪▪▪▪▪▪▪▪▪▪▪▪▪▪▪▪▪▪▪▪ ▪▪▪▪▪▪▪▪▪▪▪▪▪▪▪▪▪▪▪▪▪▪▪▪▪▪▪▪▪▪ ▪▪▪▪▪▪▪▪▪▪▪▪▪▪▪▪▪▪▪▪▪▪▪▪▪▪▪▪▪▪▪▪▪▪▪▪▪▪▪▪▪▪▪▪▪▪▪▪▪▪▪▪▪▪▪▪▪▪▪▪▪▪▪▪▪▪▪▪▪▪▪▪▪▪▪▪▪▪▪▪▪▪▪▪▪▪▪▪	▪▪▪▪▪▪▪▪▪▪▪▪▪▪▪▪▪▪▪▪▪▪ ▪▪▪▪▪▪▪▪▪▪▪▪▪▪▪▪▪▪▪▪▪▪	▪▪▪▪▪▪▪▪▪▪▪▪▪▪▪▪▪▪▪▪▪▪▪▪▪▪▪▪▪▪▪▪▪▪▪▪▪▪▪▪▪▪▪▪▪▪▪▪▪
▪▪▪▪▪▪▪▪▪▪▪▪▪▪▪▪▪▪▪▪▪▪	▪▪▪▪▪▪▪▪▪▪▪ ▪▪▪▪▪▪▪▪▪▪▪▪▪▪▪▪▪▪▪▪▪▪▪▪▪▪▪▪▪▪▪▪▪▪▪▪▪▪▪▪▪▪▪▪▪▪▪▪▪▪▪▪▪▪▪▪▪▪▪▪▪▪▪▪▪▪▪▪▪▪▪▪▪▪▪▪▪▪▪▪▪▪▪▪▪▪▪▪	▪▪▪▪▪▪▪▪▪▪▪▪▪▪▪▪▪▪▪▪▪▪▪▪▪▪▪▪▪▪ ▪▪▪▪▪▪▪▪▪▪▪▪▪▪▪▪▪▪▪▪▪▪▪▪▪▪▪▪▪▪ ▪▪▪▪▪▪▪▪▪▪▪▪▪▪▪▪▪▪▪▪▪▪▪▪▪▪▪▪▪▪▪▪▪▪▪▪▪▪▪▪▪▪▪▪▪▪▪▪▪▪▪▪▪▪▪▪▪▪▪▪▪▪▪▪▪▪▪▪▪▪▪▪▪▪▪▪▪▪▪▪▪▪▪▪▪▪▪▪	▪▪▪▪▪▪▪▪▪▪▪▪▪▪▪▪▪▪▪▪▪▪ ▪▪▪▪▪▪▪▪▪▪▪▪▪▪▪▪▪▪▪▪▪▪	▪▪▪▪▪▪▪▪▪▪▪▪▪▪▪▪▪▪▪▪▪▪▪▪▪▪▪▪▪▪▪▪▪▪▪▪▪▪▪▪▪▪▪▪▪▪▪▪▪
▪▪▪▪▪▪▪▪▪▪▪▪▪▪▪▪▪▪▪▪▪▪	▪▪▪▪▪▪▪▪▪▪▪ ▪▪▪▪▪▪▪▪▪▪▪▪▪▪▪▪▪▪▪▪▪▪▪▪▪▪▪▪▪▪▪▪▪▪▪▪▪▪▪▪▪▪▪▪▪▪▪▪▪▪▪▪▪▪▪▪▪▪▪▪▪▪▪▪▪▪▪▪▪▪▪▪▪▪▪▪▪▪▪▪▪▪▪▪▪▪▪▪	▪▪▪▪▪▪▪▪▪▪▪▪▪▪▪▪▪▪▪▪▪▪▪▪▪▪▪▪▪▪ ▪▪▪▪▪▪▪▪▪▪▪▪▪▪▪▪▪▪▪▪▪▪▪▪▪▪▪▪▪▪ ▪▪▪▪▪▪▪▪▪▪▪▪▪▪▪▪▪▪▪▪▪▪▪▪▪▪▪▪▪▪▪▪▪▪▪▪▪▪▪▪▪▪▪▪▪▪▪▪▪▪▪▪▪▪▪▪▪▪▪▪▪▪▪▪▪▪▪▪▪▪▪▪▪▪▪▪▪▪▪▪▪▪▪▪▪▪▪▪	▪▪▪▪▪▪▪▪▪▪▪▪▪▪▪▪▪▪▪▪▪▪ ▪▪▪▪▪▪▪▪▪▪▪▪▪▪▪▪▪▪▪▪▪▪	▪▪▪▪▪▪▪▪▪▪▪▪▪▪▪▪▪▪▪▪▪▪▪▪▪▪▪▪▪▪▪▪▪▪▪▪▪▪▪▪▪▪▪▪▪▪▪▪▪
▪▪▪▪▪▪▪▪▪▪▪▪▪▪▪▪▪▪▪▪▪▪	▪▪▪▪▪▪▪▪▪▪▪ ▪▪▪▪▪▪▪▪▪▪▪▪▪▪▪▪▪▪▪▪▪▪▪▪▪▪▪▪▪▪▪▪▪▪▪▪▪▪▪▪▪▪▪▪▪▪▪▪▪▪▪▪▪▪▪▪▪▪▪▪▪▪▪▪▪▪▪▪▪▪▪▪▪▪▪▪▪▪▪▪▪▪▪▪▪▪▪▪	▪▪▪▪▪▪▪▪▪▪▪▪▪▪▪▪▪▪▪▪▪▪▪▪▪▪▪▪▪▪ ▪▪▪▪▪▪▪▪▪▪▪▪▪▪▪▪▪▪▪▪▪▪▪▪▪▪▪▪▪▪ ▪▪▪▪▪▪▪▪▪▪▪▪▪▪▪▪▪▪▪▪▪▪▪▪▪▪▪▪▪▪▪▪▪▪▪▪▪▪▪▪▪▪▪▪▪▪▪▪▪▪▪▪▪▪▪▪▪▪▪▪▪▪▪▪▪▪▪▪▪▪▪▪▪▪▪▪▪▪▪▪▪▪▪▪▪▪▪▪	▪▪▪▪▪▪▪▪▪▪▪▪▪▪▪▪▪▪▪▪▪▪ ▪▪▪▪▪▪▪▪▪▪▪▪▪▪▪▪▪▪▪▪▪▪	▪▪▪▪▪▪▪▪▪▪▪▪▪▪▪▪▪▪▪▪▪▪▪▪▪▪▪▪▪▪▪▪▪▪▪▪▪▪▪▪▪▪▪▪▪▪▪▪▪
▪▪▪▪▪▪▪▪▪▪▪▪▪▪▪▪▪▪▪▪▪▪	▪▪▪▪▪▪▪▪▪▪▪ ▪▪▪▪▪▪▪▪▪▪▪▪▪▪▪▪▪▪▪▪▪▪▪▪▪▪▪▪▪▪▪▪▪▪▪▪▪▪▪▪▪▪▪▪▪▪▪▪▪▪▪▪▪▪▪▪▪▪▪▪▪▪▪▪▪▪▪▪▪▪▪▪▪▪▪▪▪▪▪▪▪▪▪▪▪▪▪▪	▪▪▪▪▪▪▪▪▪▪▪▪▪▪▪▪▪▪▪▪▪▪▪▪▪▪▪▪▪▪ ▪▪▪▪▪▪▪▪▪▪▪▪▪▪▪▪▪▪▪▪▪▪▪▪▪▪▪▪▪▪ ▪▪▪▪▪▪▪▪▪▪▪▪▪▪▪▪▪▪▪▪▪▪▪▪▪▪▪▪▪▪▪▪▪▪▪▪▪▪▪▪▪▪▪▪▪▪▪▪▪▪▪▪▪▪▪▪▪▪▪▪▪▪▪▪▪▪▪▪▪▪▪▪▪▪▪▪▪▪▪▪▪▪▪▪▪▪▪▪	▪▪▪▪▪▪▪▪▪▪▪▪▪▪▪▪▪▪▪▪▪▪ ▪▪▪▪▪▪▪▪▪▪▪▪▪▪▪▪▪▪▪▪▪▪	▪▪▪▪▪▪▪▪▪▪▪▪▪▪▪▪▪▪▪▪▪▪▪▪▪▪▪▪▪▪▪▪▪▪▪▪▪▪▪▪▪▪▪▪▪▪▪▪▪
▪▪▪▪▪▪▪▪▪▪▪▪▪▪▪▪▪▪▪▪▪▪	▪▪▪▪▪▪▪▪▪▪▪ ▪▪▪▪▪▪▪▪▪▪▪▪▪▪▪▪▪▪▪▪▪▪▪▪▪▪▪▪▪▪▪▪▪▪▪▪▪▪▪▪▪▪▪▪▪▪▪▪▪▪▪▪▪▪▪▪▪▪▪▪▪▪▪▪▪▪▪▪▪▪▪▪▪▪▪▪▪▪▪▪▪▪▪▪▪▪▪▪	▪▪▪▪▪▪▪▪▪▪▪▪▪▪▪▪▪▪▪▪▪▪▪▪▪▪▪▪▪▪ ▪▪▪▪▪▪▪▪▪▪▪▪▪▪▪▪▪▪▪▪▪▪▪▪▪▪▪▪▪▪ ▪▪▪▪▪▪▪▪▪▪▪▪▪▪▪▪▪▪▪▪▪▪▪▪▪▪▪▪▪▪▪▪▪▪▪▪▪▪▪▪▪▪▪▪▪▪▪▪▪▪▪▪▪▪▪▪▪▪▪▪▪▪▪▪▪▪▪▪▪▪▪▪▪▪▪▪▪▪▪▪▪▪▪▪▪▪▪▪	▪▪▪▪▪▪▪▪▪▪▪▪▪▪▪▪▪▪▪▪▪▪ ▪▪▪▪▪▪▪▪▪▪▪▪▪▪▪▪▪▪▪▪▪▪	▪▪▪▪▪▪▪▪▪▪▪▪▪▪▪▪▪▪▪▪▪▪▪▪▪▪▪▪▪▪▪▪▪▪▪▪▪▪▪▪▪▪▪▪▪▪▪▪▪
▪▪▪▪▪▪▪▪▪▪▪▪▪▪▪▪▪▪▪▪▪▪	▪▪▪▪▪▪▪▪▪▪▪ ▪▪▪▪▪▪▪▪▪▪▪▪▪▪▪▪▪▪▪▪▪▪▪▪▪▪▪▪▪▪▪▪▪▪▪▪▪▪▪▪▪▪▪▪▪▪▪▪▪▪▪▪▪▪▪▪▪▪▪▪▪▪▪▪▪▪▪▪▪▪▪▪▪▪▪▪▪▪▪▪▪▪▪▪▪▪▪▪	▪▪▪▪▪▪▪▪▪▪▪▪▪▪▪▪▪▪▪▪▪▪▪▪▪▪▪▪▪▪ ▪▪▪▪▪▪▪▪▪▪▪▪▪▪▪▪▪▪▪▪▪▪▪▪▪▪▪▪▪▪ ▪▪▪▪▪▪▪▪▪▪▪▪▪▪▪▪▪▪▪▪▪▪▪▪▪▪▪▪▪▪▪▪▪▪▪▪▪▪▪▪▪▪▪▪▪▪▪▪▪▪▪▪▪▪▪▪▪▪▪▪▪▪▪▪▪▪▪▪▪▪▪▪▪▪▪▪▪▪▪▪▪▪▪▪▪▪▪▪	▪▪▪▪▪▪▪▪▪▪▪▪▪▪▪▪▪▪▪▪▪▪ ▪▪▪▪▪▪▪▪▪▪▪▪▪▪▪▪▪▪▪▪▪▪	▪▪▪▪▪▪▪▪▪▪▪▪▪▪▪▪▪▪▪▪▪▪▪▪▪▪▪▪▪▪▪▪▪▪▪▪▪▪▪▪▪▪▪▪▪▪▪▪▪
▪▪▪▪▪▪▪▪▪▪▪▪▪▪▪▪▪▪▪▪▪▪	▪▪▪▪▪▪▪▪▪▪▪ ▪▪▪▪▪▪▪▪▪▪▪▪▪▪▪▪▪▪▪▪▪▪▪▪▪▪▪▪▪▪▪▪▪▪▪▪▪▪▪▪▪▪▪▪▪▪▪▪▪▪▪▪▪▪▪▪▪▪▪▪▪▪▪▪▪▪▪▪▪▪▪▪▪▪▪▪▪▪▪▪▪▪▪▪▪▪▪▪	▪▪▪▪▪▪▪▪▪▪▪▪▪▪▪▪▪▪▪▪▪▪▪▪▪▪▪▪▪▪ ▪▪▪▪▪▪▪▪▪▪▪▪▪▪▪▪▪▪▪▪▪▪▪▪▪▪▪▪▪▪ ▪▪▪▪▪▪▪▪▪▪▪▪▪▪▪▪▪▪▪▪▪▪▪▪▪▪▪▪▪▪▪▪▪▪▪▪▪▪▪▪▪▪▪▪▪▪▪▪▪▪▪▪▪▪▪▪▪▪▪▪▪▪▪▪▪▪▪▪▪▪▪▪▪▪▪▪▪▪▪▪▪▪▪▪▪▪▪▪	▪▪▪▪▪▪▪▪▪▪▪▪▪▪▪▪▪▪▪▪▪▪ ▪▪▪▪▪▪▪▪▪▪▪▪▪▪▪▪▪▪▪▪▪▪	▪▪▪▪▪▪▪▪▪▪▪▪▪▪▪▪▪▪▪▪▪▪▪▪▪▪▪▪▪▪▪▪▪▪▪▪▪▪▪▪▪▪▪▪▪▪▪▪▪
▪▪▪▪▪▪▪▪▪▪▪▪▪▪▪▪▪▪▪▪▪▪	▪▪▪▪▪▪▪▪▪▪▪ ▪▪▪▪▪▪▪▪▪▪▪▪▪▪▪▪▪▪▪▪▪▪▪▪▪▪▪▪▪▪▪▪▪▪▪▪▪▪▪▪▪▪▪▪▪▪▪▪▪▪▪▪▪▪▪▪▪▪▪▪▪▪▪▪▪▪▪▪▪▪▪▪▪▪▪▪▪▪▪▪▪▪▪▪▪▪▪▪	▪▪▪▪▪▪▪▪▪▪▪▪▪▪▪▪▪▪▪▪▪▪▪▪▪▪▪▪▪▪ ▪▪▪▪▪▪▪▪▪▪▪▪▪▪▪▪▪▪▪▪▪▪▪▪▪▪▪▪▪▪ ▪▪▪▪▪▪▪▪▪▪▪▪▪▪▪▪▪▪▪▪▪▪▪▪▪▪▪▪▪▪▪▪▪▪▪▪▪▪▪▪▪▪▪▪▪▪▪▪▪▪▪▪▪▪▪▪▪▪▪▪▪▪▪▪▪▪▪▪▪▪▪▪▪▪▪▪▪▪▪▪▪▪▪▪▪▪▪▪	▪▪▪▪▪▪▪▪▪▪▪▪▪▪▪▪▪▪▪▪▪▪ ▪▪▪▪▪▪▪▪▪▪▪▪▪▪▪▪▪▪▪▪▪▪	▪▪▪▪▪▪▪▪▪▪▪▪▪▪▪▪▪▪▪▪▪▪▪▪▪▪▪▪▪▪▪▪▪▪▪▪▪▪▪▪▪▪▪▪▪▪▪▪▪
▪▪▪▪▪▪▪▪▪▪▪▪▪▪▪▪▪▪▪▪▪▪	▪▪▪▪▪▪▪▪▪▪▪ ▪▪▪▪▪▪▪▪▪▪▪▪▪▪▪▪▪▪▪▪▪▪▪▪▪▪▪▪▪▪▪▪▪▪▪▪▪▪▪▪▪▪▪▪▪▪▪▪▪▪▪▪▪▪▪▪▪▪▪▪▪▪▪▪▪▪▪▪▪▪▪▪▪▪▪▪▪▪▪▪▪▪▪▪▪▪▪▪	▪▪▪▪▪▪▪▪▪▪▪▪▪▪▪▪▪▪▪▪▪▪▪▪▪▪▪▪▪▪ ▪▪▪▪▪▪▪▪▪▪▪▪▪▪▪▪▪▪▪▪▪▪▪▪▪▪▪▪▪▪ ▪▪▪▪▪▪▪▪▪▪▪▪▪▪▪▪▪▪▪▪▪▪▪▪▪▪▪▪▪▪▪▪▪▪▪▪▪▪▪▪▪▪▪▪▪▪▪▪▪▪▪▪▪▪▪▪▪▪▪▪▪▪▪▪▪▪▪▪▪▪▪▪▪▪▪▪▪▪▪▪▪▪▪▪▪▪▪▪	▪▪▪▪▪▪▪▪▪▪▪▪▪▪▪▪▪▪▪▪▪▪ ▪▪▪▪▪▪▪▪▪▪▪▪▪▪▪▪▪▪▪▪▪▪	▪▪▪▪▪▪▪▪▪▪▪▪▪▪▪▪▪▪▪▪▪▪▪▪▪▪▪▪▪▪▪▪▪▪▪▪▪▪▪▪▪▪▪▪▪▪▪▪▪
▪▪▪▪▪▪▪▪▪▪▪▪▪▪▪▪▪▪▪▪▪▪	▪▪▪▪▪▪▪▪▪▪▪ ▪▪▪▪▪▪▪▪▪▪▪▪▪▪▪▪▪▪▪▪▪▪▪▪▪▪▪▪▪▪▪▪▪▪▪▪▪▪▪▪▪▪▪▪▪▪▪▪▪▪▪▪▪▪▪▪▪▪▪▪▪▪▪▪▪▪▪▪▪▪▪▪▪▪▪▪▪▪▪▪▪▪▪▪▪▪▪▪	▪▪▪▪▪▪▪▪▪▪▪▪▪▪▪▪▪▪▪▪▪▪▪▪▪▪▪▪▪▪ ▪▪▪▪▪▪▪▪▪▪▪▪▪▪▪▪▪▪▪▪▪▪▪▪▪▪▪▪▪▪ ▪▪▪▪▪▪▪▪▪▪▪▪▪▪▪▪▪▪▪▪▪▪▪▪▪▪▪▪▪▪▪▪▪▪▪▪▪▪▪▪▪▪▪▪▪▪▪▪▪▪▪▪▪▪▪▪▪▪▪▪▪▪▪▪▪▪▪▪▪▪▪▪▪▪▪▪▪▪▪▪▪▪▪▪▪▪▪▪	▪▪▪▪▪▪▪▪▪▪▪▪▪▪▪▪▪▪▪▪▪▪ ▪▪▪▪▪▪▪▪▪▪▪▪▪▪▪▪▪▪▪▪▪▪	▪▪▪▪▪▪▪▪▪▪▪▪▪▪▪▪▪▪▪▪▪▪▪▪▪▪▪▪▪▪▪▪▪▪▪▪▪▪▪▪▪▪▪▪▪▪▪▪▪
▪▪▪▪▪▪▪▪▪▪▪▪▪▪▪▪▪▪▪▪▪▪	▪▪▪▪▪▪▪▪▪▪▪ ▪▪▪▪▪▪▪▪▪▪▪▪▪▪▪▪▪▪▪▪▪▪▪▪▪▪▪▪▪▪▪▪▪▪▪▪▪▪▪▪▪▪▪▪▪▪▪▪▪▪▪▪▪▪▪▪▪▪▪▪▪▪▪▪▪▪▪▪▪▪▪▪▪▪▪▪▪▪▪▪▪▪▪▪▪▪▪▪	▪▪▪▪▪▪▪▪▪▪▪▪▪▪▪▪▪▪▪▪▪▪▪▪▪▪▪▪▪▪ ▪▪▪▪▪▪▪▪▪▪▪▪▪▪▪▪▪▪▪▪▪▪▪▪▪▪▪▪▪▪ ▪▪▪▪▪▪▪▪▪▪▪▪▪▪▪▪▪▪▪▪▪▪▪▪▪▪▪▪▪▪▪▪▪▪▪▪▪▪▪▪▪▪▪▪▪▪▪▪▪▪▪▪▪▪▪▪▪▪▪▪▪▪▪▪▪▪▪▪▪▪▪▪▪▪▪▪▪▪▪▪▪▪▪▪▪▪▪▪	▪▪▪▪▪▪▪▪▪▪▪▪▪▪▪▪▪▪▪▪▪▪ ▪▪▪▪▪▪▪▪▪▪▪▪▪▪▪▪▪▪▪▪▪▪	▪▪▪▪▪▪▪▪▪▪▪▪▪▪▪▪▪▪▪▪▪▪▪▪▪▪▪▪▪▪▪▪▪▪▪▪▪▪▪▪▪▪▪▪▪▪▪▪▪
▪▪▪▪▪▪▪▪▪▪▪▪▪▪▪▪▪▪▪▪▪▪	▪▪▪▪▪▪▪▪▪▪▪ ▪▪▪▪▪▪▪▪▪▪▪▪▪▪▪▪▪▪▪▪▪▪▪▪▪▪▪▪▪▪▪▪▪▪▪▪▪▪▪▪▪▪▪▪▪▪▪▪▪▪▪▪▪▪▪▪▪▪▪▪▪▪▪▪▪▪▪▪▪▪▪▪▪▪▪▪▪▪▪▪▪▪▪▪▪▪▪▪	▪▪▪▪▪▪▪▪▪▪▪▪▪▪▪▪▪▪▪▪▪▪▪▪▪▪▪▪▪▪ ▪▪▪▪▪▪▪▪▪▪▪▪▪▪▪▪▪▪▪▪▪▪▪▪▪▪▪▪▪▪ ▪▪▪▪▪▪▪▪▪▪▪▪▪▪▪▪▪▪▪▪▪▪▪▪▪▪▪▪▪▪▪▪▪▪▪▪▪▪▪▪▪▪▪▪▪▪▪▪▪▪▪▪▪▪▪▪▪▪▪▪▪▪▪▪▪▪▪▪▪▪▪▪▪▪▪▪▪▪▪▪▪▪▪▪▪▪▪▪	▪▪▪▪▪▪▪▪▪▪▪▪▪▪▪▪▪▪▪▪▪▪ ▪▪▪▪▪▪▪▪▪▪▪▪▪▪▪▪▪▪▪▪▪▪	▪▪▪▪▪▪▪▪▪▪▪▪▪▪▪▪▪▪▪▪▪▪▪▪▪▪▪▪▪▪▪▪▪▪▪▪▪▪▪▪▪▪▪▪▪▪▪▪▪
▪▪▪▪▪▪▪▪▪▪▪▪▪▪▪▪▪▪▪▪▪▪	▪▪▪▪▪▪▪▪▪▪▪ ▪▪▪▪▪▪▪▪▪▪▪▪▪▪▪▪▪▪▪▪▪▪▪▪▪▪▪▪▪▪▪▪▪▪▪▪▪▪▪▪▪▪▪▪▪▪▪▪▪▪▪▪▪▪▪▪▪▪▪▪▪▪▪▪▪▪▪▪▪▪▪▪▪▪▪▪▪▪▪▪▪▪▪▪▪▪▪▪	▪▪▪▪▪▪▪▪▪▪▪▪▪▪▪▪▪▪▪▪▪▪▪▪▪▪▪▪▪▪ ▪▪▪▪▪▪▪▪▪▪▪▪▪▪▪▪▪▪▪▪▪▪▪▪▪▪▪▪▪▪ ▪▪▪▪▪▪▪▪▪▪▪▪▪▪▪▪▪▪▪▪▪▪▪▪▪▪▪▪▪▪▪▪▪▪▪▪▪▪▪▪▪▪▪▪▪▪▪▪▪▪▪▪▪▪▪▪▪▪▪▪▪▪▪▪▪▪▪▪▪▪▪▪▪▪▪▪▪▪▪▪▪▪▪▪▪▪▪▪	▪▪▪▪▪▪▪▪▪▪▪▪▪▪▪▪▪▪▪▪▪▪ ▪▪▪▪▪▪▪▪▪▪▪▪▪▪▪▪▪▪▪▪▪▪	▪▪▪▪▪▪▪▪▪▪▪▪▪▪▪▪▪▪▪▪▪▪▪▪▪▪▪▪▪▪▪▪▪▪▪▪▪▪▪▪▪▪▪▪▪▪▪▪▪
▪▪▪▪▪▪▪▪▪▪▪▪▪▪▪▪▪▪▪▪▪▪	▪▪▪▪▪▪▪▪▪▪▪ ▪▪▪▪▪▪▪▪▪▪▪▪▪▪▪▪▪▪▪▪▪▪▪▪▪▪▪▪▪▪▪▪▪▪▪▪▪▪▪▪▪▪▪▪▪▪▪▪▪▪▪▪▪▪▪▪▪▪▪▪▪▪▪▪▪▪▪▪▪▪▪▪▪▪▪▪▪▪▪▪▪▪▪▪▪▪▪▪	▪▪▪▪▪▪▪▪▪▪▪▪▪▪▪▪▪▪▪▪▪▪▪▪▪▪▪▪▪▪ ▪▪▪▪▪▪▪▪▪▪▪▪▪▪▪▪▪▪▪▪▪▪▪▪▪▪▪▪▪▪ ▪▪▪▪▪▪▪▪▪▪▪▪▪▪▪▪▪▪▪▪▪▪▪▪▪▪▪▪▪▪▪▪▪▪▪▪▪▪▪▪▪▪▪▪▪▪▪▪▪▪▪▪▪▪▪▪▪▪▪▪▪▪▪▪▪▪▪▪▪▪▪▪▪▪▪▪▪▪▪▪▪▪▪▪▪▪▪▪	▪▪▪▪▪▪▪▪▪▪▪▪▪▪▪▪▪▪▪▪▪▪ ▪▪▪▪▪▪▪▪▪▪▪▪▪▪▪▪▪▪▪▪▪▪	▪▪▪▪▪▪▪▪▪▪▪▪▪▪▪▪▪▪▪▪▪▪▪▪▪▪▪▪▪▪▪▪▪▪▪▪▪▪▪▪▪▪▪▪▪▪▪▪▪
▪▪▪▪▪▪▪▪▪▪▪▪▪▪▪▪▪▪▪▪▪▪	▪▪▪▪▪▪▪▪▪▪▪ ▪▪▪▪▪▪▪▪▪▪▪▪▪▪▪▪▪▪▪▪▪▪▪▪▪▪▪▪▪▪▪▪▪▪▪▪▪▪▪▪▪▪▪▪▪▪▪▪▪▪▪▪▪▪▪▪▪▪▪▪▪▪▪▪▪▪▪▪▪▪▪▪▪▪▪▪▪▪▪▪▪▪▪▪▪▪▪▪	▪▪▪▪▪▪▪▪▪▪▪▪▪▪▪▪▪▪▪▪▪▪▪▪▪▪▪▪▪▪ ▪▪▪▪▪▪▪▪▪▪▪▪▪▪▪▪▪▪▪▪▪▪▪▪▪▪▪▪▪▪ ▪▪▪▪▪▪▪▪▪▪▪▪▪▪▪▪▪▪▪▪▪▪▪▪▪▪▪▪▪▪▪▪▪▪▪▪▪▪▪▪▪▪▪▪▪▪▪▪▪▪▪▪▪▪▪▪▪▪▪▪▪▪▪▪▪▪▪▪▪▪▪▪▪▪▪▪▪▪▪▪▪▪▪▪▪▪▪▪	▪▪▪▪▪▪▪▪▪▪▪▪▪▪▪▪▪▪▪▪▪▪ ▪▪▪▪▪▪▪▪▪▪▪▪▪▪▪▪▪▪▪▪▪▪	▪▪▪▪▪▪▪▪▪▪▪▪▪▪▪▪▪▪▪▪▪▪▪▪▪▪▪▪▪▪▪▪▪▪▪▪▪▪▪▪▪▪▪▪▪▪▪▪▪
▪▪▪▪▪▪▪▪▪▪▪▪▪▪▪▪▪▪▪▪▪▪	▪▪▪▪▪▪▪▪▪▪▪ ▪▪▪▪▪▪▪▪▪▪▪▪▪▪▪▪▪▪▪▪▪▪▪▪▪▪▪▪▪▪▪▪▪▪▪▪▪▪▪▪▪▪▪▪▪▪▪▪▪▪▪▪▪▪▪▪▪▪▪▪▪▪▪▪▪▪▪▪▪▪▪▪▪▪▪▪▪▪▪▪▪▪▪▪▪▪▪▪	▪▪▪▪▪▪▪▪▪▪▪▪▪▪▪▪▪▪▪▪▪▪▪▪▪▪▪▪▪▪ ▪▪▪▪▪▪▪▪▪▪▪▪▪▪▪▪▪▪▪▪▪▪▪▪▪▪▪▪▪▪ ▪▪▪▪▪▪▪▪▪▪▪▪▪▪▪▪▪▪▪▪▪▪▪▪▪▪▪▪▪▪▪▪▪▪▪▪▪▪▪▪▪▪▪▪▪▪▪▪▪▪▪▪▪▪▪▪▪▪▪▪▪▪▪▪▪▪▪▪▪▪▪▪▪▪▪▪▪▪▪▪▪▪▪▪▪▪▪▪	▪▪▪▪▪▪▪▪▪▪▪▪▪▪▪▪▪▪▪▪▪▪ ▪▪▪▪▪▪▪▪▪▪▪▪▪▪▪▪▪▪▪▪▪▪	▪▪▪▪▪▪▪▪▪▪▪▪▪▪▪▪▪▪▪▪▪▪▪▪▪▪▪▪▪▪▪▪▪▪▪▪▪▪▪▪▪▪▪▪▪▪▪▪▪
▪▪▪▪▪▪▪▪▪▪▪▪▪▪▪▪▪▪▪▪▪▪	▪▪▪▪▪▪▪▪▪▪▪ ▪▪▪▪▪▪▪▪▪▪▪▪▪▪▪▪▪▪▪▪▪▪▪▪▪▪▪▪▪▪▪▪▪▪▪▪▪▪▪▪▪▪▪▪▪▪▪▪▪▪▪▪▪▪▪▪▪▪▪▪▪▪▪▪▪▪▪▪▪▪▪▪▪▪▪▪▪▪▪▪▪▪▪▪▪▪▪▪	▪▪▪▪▪▪▪▪▪▪▪▪▪▪▪▪▪▪▪▪▪▪▪▪▪▪▪▪▪▪ ▪▪▪▪▪▪▪▪▪▪▪▪▪▪▪▪▪▪▪▪▪▪▪▪▪▪▪▪▪▪ ▪▪▪▪▪▪▪▪▪▪▪▪▪▪▪▪▪▪▪▪▪▪▪▪▪▪▪▪▪▪▪▪▪▪▪▪▪▪▪▪▪▪▪▪▪▪▪▪▪▪▪▪▪▪▪▪▪▪▪▪▪▪▪▪▪▪▪▪▪▪▪▪▪▪▪▪▪▪▪▪▪▪▪▪▪▪▪▪	▪▪▪▪▪▪▪▪▪▪▪▪▪▪▪▪▪▪▪▪▪▪ ▪▪▪▪▪▪▪▪▪▪▪▪▪▪▪▪▪▪▪▪▪▪	▪▪▪▪▪▪▪▪▪▪▪▪▪▪▪▪▪▪▪▪▪▪▪▪▪▪▪▪▪▪▪▪▪▪▪▪▪▪▪▪▪▪▪▪▪▪▪▪▪
▪▪▪▪▪▪▪▪▪▪▪▪▪▪▪▪▪▪▪▪▪▪	▪▪▪▪▪▪▪▪▪▪▪ ▪▪▪▪▪▪▪▪▪▪▪▪▪▪▪▪▪▪▪▪▪▪▪▪▪▪▪▪▪▪▪▪▪▪▪▪▪▪▪▪▪▪▪▪▪▪▪▪▪▪▪▪▪▪▪▪▪▪▪▪▪▪▪▪▪▪▪▪▪▪▪▪▪▪▪▪▪▪▪▪▪▪▪▪▪▪▪▪	▪▪▪▪▪▪▪▪▪▪▪▪▪▪▪▪▪▪▪▪▪▪▪▪▪▪▪▪▪▪ ▪▪▪▪▪▪▪▪▪▪▪▪▪▪▪▪▪▪▪▪▪▪▪▪▪▪▪▪▪▪ ▪▪▪▪▪▪▪▪▪▪▪▪▪▪▪▪▪▪▪▪▪▪▪▪▪▪▪▪▪▪▪▪▪▪▪▪▪▪▪▪▪▪▪▪▪▪▪▪▪▪▪▪▪▪▪▪▪▪▪▪▪▪▪▪▪▪▪▪▪▪▪▪▪▪▪▪▪▪▪▪▪▪▪▪▪▪▪▪	▪▪▪▪▪▪▪▪▪▪▪▪▪▪▪▪▪▪▪▪▪▪ ▪▪▪▪▪▪▪▪▪▪▪▪▪▪▪▪▪▪▪▪▪▪	▪▪▪▪▪▪▪▪▪▪▪▪▪▪▪▪▪▪▪▪▪▪▪▪▪▪▪▪▪▪▪▪▪▪▪▪▪▪▪▪▪▪▪▪▪▪▪▪▪
▪▪▪▪▪▪▪▪▪▪▪▪▪▪▪▪▪▪▪▪▪▪	▪▪▪▪▪▪▪▪▪▪▪ ▪▪▪▪▪▪▪▪▪▪▪▪▪▪▪▪▪▪▪▪▪▪▪▪▪▪▪▪▪▪▪▪▪▪▪▪▪▪▪▪▪▪▪▪▪▪▪▪▪▪▪▪▪▪▪▪▪▪▪▪▪▪▪▪▪▪▪▪▪▪▪▪▪▪▪▪▪▪▪▪▪▪▪▪▪▪▪▪	▪▪▪▪▪▪▪▪▪▪▪▪▪▪▪▪▪▪▪▪▪▪▪▪▪▪▪▪▪▪ ▪▪▪▪▪▪▪▪▪▪▪▪▪▪▪▪▪▪▪▪▪▪▪▪▪▪▪▪▪▪ ▪▪▪▪▪▪▪▪▪▪▪▪▪▪▪▪▪▪▪▪▪▪▪▪▪▪▪▪▪▪▪▪▪▪▪▪▪▪▪▪▪▪▪▪▪▪▪▪▪▪▪▪▪▪▪▪▪▪▪▪▪▪▪▪▪▪▪▪▪▪▪▪▪▪▪▪▪▪▪▪▪▪▪▪▪▪▪▪	▪▪▪▪▪▪▪▪▪▪▪▪▪▪▪▪▪▪▪▪▪▪ ▪▪▪▪▪▪▪▪▪▪▪▪▪▪▪▪▪▪▪▪▪▪	▪▪▪▪▪▪▪▪▪▪▪▪▪▪▪▪▪▪▪▪▪▪▪▪▪▪▪▪▪▪▪▪▪▪▪▪▪▪▪▪▪▪▪▪▪▪▪▪▪
▪▪▪▪▪▪▪▪▪▪▪▪▪▪▪▪▪▪▪▪▪▪	▪▪▪▪▪▪▪▪▪▪▪ ▪▪▪▪▪▪▪▪▪▪▪▪▪▪▪▪▪▪▪▪▪▪▪▪▪▪▪▪▪▪▪▪▪▪▪▪▪▪▪▪▪▪▪▪▪▪▪▪▪▪▪▪▪▪▪▪▪▪▪▪▪▪▪▪▪▪▪▪▪▪▪▪▪▪▪▪▪▪▪▪▪▪▪▪▪▪▪▪	▪▪▪▪▪▪▪▪▪▪▪▪▪▪▪▪▪▪▪▪▪▪▪▪▪▪▪▪▪▪ ▪▪▪▪▪▪▪▪▪▪▪▪▪▪▪▪▪▪▪▪▪▪▪▪▪▪▪▪▪▪ ▪▪▪▪▪▪▪▪▪▪▪▪▪▪▪▪▪▪▪▪▪▪▪▪▪▪▪▪▪▪▪▪▪▪▪▪▪▪▪▪▪▪▪▪▪▪▪▪▪▪▪▪▪▪▪▪▪▪▪▪▪▪▪▪▪▪▪▪▪▪▪▪▪▪▪▪▪▪▪▪▪▪▪▪▪▪▪▪	▪▪▪▪▪▪▪▪▪▪▪▪▪▪▪▪▪▪▪▪▪▪ ▪▪▪▪▪▪▪▪▪▪▪▪▪▪▪▪▪▪▪▪▪▪	▪▪▪▪▪▪▪▪▪▪▪▪▪▪▪▪▪▪▪▪▪▪▪▪▪▪▪▪▪▪▪▪▪▪▪▪▪▪▪▪▪▪▪▪▪▪▪▪▪
▪▪▪▪▪▪▪▪▪▪▪▪▪▪▪▪▪▪▪▪▪▪	▪▪▪▪▪▪▪▪▪▪▪ ▪▪▪▪▪▪▪▪▪▪▪▪▪▪▪▪▪▪▪▪▪▪▪▪▪▪▪▪▪▪▪▪▪▪▪▪▪▪▪▪▪▪▪▪▪▪▪▪▪▪▪▪▪▪▪▪▪▪▪▪▪▪▪▪▪▪▪▪▪▪▪▪▪▪▪▪▪▪▪▪▪▪▪▪▪▪▪▪	▪▪▪▪▪▪▪▪▪▪▪▪▪▪▪▪▪▪▪▪▪▪▪▪▪▪▪▪▪▪ ▪▪▪▪▪▪▪▪▪▪▪▪▪▪▪▪▪▪▪▪▪▪▪▪▪▪▪▪▪▪ ▪▪▪▪▪▪▪▪▪▪▪▪▪▪▪▪▪▪▪▪▪▪▪▪▪▪▪▪▪▪▪▪▪▪▪▪▪▪▪▪▪▪▪▪▪▪▪▪▪▪▪▪▪▪▪▪▪▪▪▪▪▪▪▪▪▪▪▪▪▪▪▪▪▪▪▪▪▪▪▪▪▪▪▪▪▪▪▪	▪▪▪▪▪▪▪▪▪▪▪▪▪▪▪▪▪▪▪▪▪▪ ▪▪▪▪▪▪▪▪▪▪▪▪▪▪▪▪▪▪▪▪▪▪	▪▪▪▪▪▪▪▪▪▪▪▪▪▪▪▪▪▪▪▪▪▪▪▪▪▪▪▪▪▪▪▪▪▪▪▪▪▪▪▪▪▪▪▪▪▪▪▪▪
▪▪▪▪▪▪▪▪▪▪▪▪▪▪▪▪▪▪▪▪▪▪	▪▪▪▪▪▪▪▪▪▪▪ ▪▪▪▪▪▪▪▪▪▪▪▪▪▪▪▪▪▪▪▪▪▪▪▪▪▪▪▪▪▪▪▪▪▪▪▪▪▪▪▪▪▪▪▪▪▪▪▪▪▪▪▪▪▪▪▪▪▪▪▪▪▪▪▪▪▪▪▪▪▪▪▪▪▪▪▪▪▪▪▪▪▪▪▪▪▪▪▪	▪▪▪▪▪▪▪▪▪▪▪▪▪▪▪▪▪▪▪▪▪▪▪▪▪▪▪▪▪▪ ▪▪▪▪▪▪▪▪▪▪▪▪▪▪▪▪▪▪▪▪▪▪▪▪▪▪▪▪▪▪ ▪▪▪▪▪▪▪▪▪▪▪▪▪▪▪▪▪▪▪▪▪▪▪▪▪▪▪▪▪▪▪▪▪▪▪▪▪▪▪▪▪▪▪▪▪▪▪▪▪▪▪▪▪▪▪▪▪▪▪▪▪▪▪▪▪▪▪▪▪▪▪▪▪▪▪▪▪▪▪▪▪▪▪▪▪▪▪▪	▪▪▪▪▪▪▪▪▪▪▪▪▪▪▪▪▪▪▪▪▪▪ ▪▪▪▪▪▪▪▪▪▪▪▪▪▪▪▪▪▪▪▪▪▪	▪▪▪▪▪▪▪▪▪▪▪▪▪▪▪▪▪▪▪▪▪▪▪▪▪▪▪▪▪▪▪▪▪▪▪▪▪▪▪▪▪▪▪▪▪▪▪▪▪
▪▪▪▪▪▪▪▪▪▪▪▪▪▪▪▪▪▪▪▪▪▪	▪▪▪▪▪▪▪▪▪▪▪ ▪▪▪▪▪▪▪▪▪▪▪▪▪▪▪▪▪▪▪▪▪▪▪▪▪▪▪▪▪▪▪▪▪▪▪▪▪▪▪▪▪▪▪▪▪▪▪▪▪▪▪▪▪▪▪▪▪▪▪▪▪▪▪▪▪▪▪▪▪▪▪▪▪▪▪▪▪▪▪▪▪▪▪▪▪▪▪▪	▪▪▪▪▪▪▪▪▪▪▪▪▪▪▪▪▪▪▪▪▪▪▪▪▪▪▪▪▪▪ ▪▪▪▪▪▪▪▪▪▪▪▪▪▪▪▪▪▪▪▪▪▪▪▪▪▪▪▪▪▪ ▪▪▪▪▪▪▪▪▪▪▪▪▪▪▪▪▪▪▪▪▪▪▪▪▪▪▪▪▪▪▪▪▪▪▪▪▪▪▪▪▪▪▪▪▪▪▪▪▪▪▪▪▪▪▪▪▪▪▪▪▪▪▪▪▪▪▪▪▪▪▪▪▪▪▪▪▪▪▪▪▪▪▪▪▪▪▪▪	▪▪▪▪▪▪▪▪▪▪▪▪▪▪▪▪▪▪▪▪▪▪ ▪▪▪▪▪▪▪▪▪▪▪▪▪▪▪▪▪▪▪▪▪▪	▪▪▪▪▪▪▪▪▪▪▪▪▪▪▪▪▪▪▪▪▪▪▪▪▪▪▪▪▪▪▪▪▪▪▪▪▪▪▪▪▪▪▪▪▪▪▪▪▪
▪▪▪▪▪▪▪▪▪▪▪▪▪▪▪▪▪▪▪▪▪▪	▪▪▪▪▪▪▪▪▪▪▪ ▪▪▪▪▪▪▪▪▪▪▪▪▪▪▪▪▪▪▪▪▪▪▪▪▪▪▪▪▪▪▪▪▪▪▪▪▪▪▪▪▪▪▪▪▪▪▪▪▪▪▪▪▪▪▪▪▪▪▪▪▪▪▪▪▪▪▪▪▪▪▪▪▪▪▪▪▪▪▪▪▪▪▪▪▪▪▪▪	▪▪▪▪▪▪▪▪▪▪▪▪▪▪▪▪▪▪▪▪▪▪▪▪▪▪▪▪▪▪ ▪▪▪▪▪▪▪▪▪▪▪▪▪▪▪▪▪▪▪▪▪▪▪▪▪▪▪▪▪▪ ▪▪▪▪▪▪▪▪▪▪▪▪▪▪▪▪▪▪▪▪▪▪▪▪▪▪▪▪▪▪▪▪▪▪▪▪▪▪▪▪▪▪▪▪▪▪▪▪▪▪▪▪▪▪▪▪▪▪▪▪▪▪▪▪▪▪▪▪▪▪▪▪▪▪▪▪▪▪▪▪▪▪▪▪▪▪▪▪	▪▪▪▪▪▪▪▪▪▪▪▪▪▪▪▪▪▪▪▪▪▪ ▪▪▪▪▪▪▪▪▪▪▪▪▪▪▪▪▪▪▪▪▪▪	▪▪▪▪▪▪▪▪▪▪▪▪▪▪▪▪▪▪▪▪▪▪▪▪▪▪▪▪▪▪▪▪▪▪▪▪▪▪▪▪▪▪▪▪▪▪▪▪▪
▪▪▪▪▪▪▪▪▪▪▪▪▪▪▪▪▪▪▪▪▪▪	▪▪▪▪▪▪▪▪▪▪▪ ▪▪▪▪▪▪▪▪▪▪▪▪▪▪▪▪▪▪▪▪▪▪▪▪▪▪▪▪▪▪▪▪▪▪▪▪▪▪▪▪▪▪▪▪▪▪▪▪▪▪▪▪▪▪▪▪▪▪▪▪▪▪▪▪▪▪▪▪▪▪▪▪▪▪▪▪▪▪▪▪▪▪▪▪▪▪▪▪	▪▪▪▪▪▪▪▪▪▪▪▪▪▪▪▪▪▪▪▪▪▪▪▪▪▪▪▪▪▪ ▪▪▪▪▪▪▪▪▪▪▪▪▪▪▪▪▪▪▪▪▪▪▪▪▪▪▪▪▪▪ ▪▪▪▪▪▪▪▪▪▪▪▪▪▪▪▪▪▪▪▪▪▪▪▪▪▪▪▪▪▪▪▪▪▪▪▪▪▪▪▪▪▪▪▪▪▪▪▪▪▪▪▪▪▪▪▪▪▪▪▪▪▪▪▪▪▪▪▪▪▪▪▪▪▪▪▪▪▪▪▪▪▪▪▪▪▪▪▪	▪▪▪▪▪▪▪▪▪▪▪▪▪▪▪▪▪▪▪▪▪▪ ▪▪▪▪▪▪▪▪▪▪▪▪▪▪▪▪▪▪▪▪▪▪	▪▪▪▪▪▪▪▪▪▪▪▪▪▪▪▪▪▪▪▪▪▪▪▪▪▪▪▪▪▪▪▪▪▪▪▪▪▪▪▪▪▪▪▪▪▪▪▪▪
▪▪▪▪▪▪▪▪▪▪▪▪▪▪▪▪▪▪▪▪▪▪	▪▪▪▪▪▪▪▪▪▪▪ ▪▪▪▪▪▪▪▪▪▪▪▪▪▪▪▪▪▪▪▪▪▪▪▪▪▪▪▪▪▪▪▪▪▪▪▪▪▪▪▪▪▪▪▪▪▪▪▪▪▪▪▪▪▪▪▪▪▪▪▪▪▪▪▪▪▪▪▪▪▪▪▪▪▪▪▪▪▪▪▪▪▪▪▪▪▪▪▪	▪▪▪▪▪▪▪▪▪▪▪▪▪▪▪▪▪▪▪▪▪▪▪▪▪▪▪▪▪▪ ▪▪▪▪▪▪▪▪▪▪▪▪▪▪▪▪▪▪▪▪▪▪▪▪▪▪▪▪▪▪ ▪▪▪▪▪▪▪▪▪▪▪▪▪▪▪▪▪▪▪▪▪▪▪▪▪▪▪▪▪▪▪▪▪▪▪▪▪▪▪▪▪▪▪▪▪▪▪▪▪▪▪▪▪▪▪▪▪▪▪▪▪▪▪▪▪▪▪▪▪▪▪▪▪▪▪▪▪▪▪▪▪▪▪▪▪▪▪▪	▪▪▪▪▪▪▪▪▪▪▪▪▪▪▪▪▪▪▪▪▪▪ ▪▪▪▪▪▪▪▪▪▪▪▪▪▪▪▪▪▪▪▪▪▪	▪▪▪▪▪▪▪▪▪▪▪▪▪▪▪▪▪▪▪▪▪▪▪▪▪▪▪▪▪▪▪▪▪▪▪▪▪▪▪▪▪▪▪▪▪▪▪▪▪
▪▪▪▪▪▪▪▪▪▪▪▪▪▪▪▪▪▪▪▪▪▪	▪▪▪▪▪▪▪▪▪▪▪ ▪▪▪▪▪▪▪▪▪▪▪▪▪▪▪▪▪▪▪▪▪▪▪▪▪▪▪▪▪▪▪▪▪▪▪▪▪▪▪▪▪▪▪▪▪▪▪▪▪▪▪▪▪▪▪▪▪▪▪▪▪▪▪▪▪▪▪▪▪▪▪▪▪▪▪▪▪▪▪▪▪▪▪▪▪▪▪▪	▪▪▪▪▪▪▪▪▪▪▪▪▪▪▪▪▪▪▪▪▪▪▪▪▪▪▪▪▪▪ ▪▪▪▪▪▪▪▪▪▪▪▪▪▪▪▪▪▪▪▪▪▪▪▪▪▪▪▪▪▪ ▪▪▪▪▪▪▪▪▪▪▪▪▪▪▪▪▪▪▪▪▪▪▪▪▪▪▪▪▪▪▪▪▪▪▪▪▪▪▪▪▪▪▪▪▪▪▪▪▪▪▪▪▪▪▪▪▪▪▪▪▪▪▪▪▪▪▪▪▪▪▪▪▪▪▪▪▪▪▪▪▪▪▪▪▪▪▪▪	▪▪▪▪▪▪▪▪▪▪▪▪▪▪▪▪▪▪▪▪▪▪ ▪▪▪▪▪▪▪▪▪▪▪▪▪▪▪▪▪▪▪▪▪▪	▪▪▪▪▪▪▪▪▪▪▪▪▪▪▪▪▪▪▪▪▪▪▪▪▪▪▪▪▪▪▪▪▪▪▪▪▪▪▪▪▪▪▪▪▪▪▪▪▪
▪▪▪▪▪▪▪▪▪▪▪▪▪▪▪▪▪▪▪▪▪▪	▪▪▪▪▪▪▪▪▪▪▪ ▪▪▪▪▪▪▪▪▪▪▪▪▪▪▪▪▪▪▪▪▪▪▪▪▪▪▪▪▪▪▪▪▪▪▪▪▪▪▪▪▪▪▪▪▪▪▪▪▪▪▪▪▪▪▪▪▪▪▪▪▪▪▪▪▪▪▪▪▪▪▪▪▪▪▪▪▪▪▪▪▪▪▪▪▪▪▪▪	▪▪▪▪▪▪▪▪▪▪▪▪▪▪▪▪▪▪▪▪▪▪▪▪▪▪▪▪▪▪ ▪▪▪▪▪▪▪▪▪▪▪▪▪▪▪▪▪▪▪▪▪▪▪▪▪▪▪▪▪▪ ▪▪▪▪▪▪▪▪▪▪▪▪▪▪▪▪▪▪▪▪▪▪▪▪▪▪▪▪▪▪▪▪▪▪▪▪▪▪▪▪▪▪▪▪▪▪▪▪▪▪▪▪▪▪▪▪▪▪▪▪▪▪▪▪▪▪▪▪▪▪▪▪▪▪▪▪▪▪▪▪▪▪▪▪▪▪▪▪	▪▪▪▪▪▪▪▪▪▪▪▪▪▪▪▪▪▪▪▪▪▪ ▪▪▪▪▪▪▪▪▪▪▪▪▪▪▪▪▪▪▪▪▪▪	▪▪▪▪▪▪▪▪▪▪▪▪▪▪▪▪▪▪▪▪▪▪▪▪▪▪▪▪▪▪▪▪▪▪▪▪▪▪▪▪▪▪▪▪▪▪▪▪▪
▪▪▪▪▪▪▪▪▪▪▪▪▪▪▪▪▪▪▪▪▪▪	▪▪▪▪▪▪▪▪▪▪▪ ▪▪▪▪▪▪▪▪▪▪▪▪▪▪▪▪▪▪▪▪▪▪▪▪▪▪▪▪▪▪▪▪▪▪▪▪▪▪▪▪▪▪▪▪▪▪▪▪▪▪▪▪▪▪▪▪▪▪▪▪▪▪▪▪▪▪▪▪▪▪▪▪▪▪▪▪▪▪▪▪▪▪▪▪▪▪▪▪	▪▪▪▪▪▪▪▪▪▪▪▪▪▪▪▪▪▪▪▪▪▪▪▪▪▪▪▪▪▪ ▪▪▪▪▪▪▪▪▪▪▪▪▪▪▪▪▪▪▪▪▪▪▪▪▪▪▪▪▪▪ ▪▪▪▪▪▪▪▪▪▪▪▪▪▪▪▪▪▪▪▪▪▪▪▪▪▪▪▪▪▪▪▪▪▪▪▪▪▪▪▪▪▪▪▪▪▪▪▪▪▪▪▪▪▪▪▪▪▪▪▪▪▪▪▪▪▪▪▪▪▪▪▪▪▪▪▪▪▪▪▪▪▪▪▪▪▪▪▪	▪▪▪▪▪▪▪▪▪▪▪▪▪▪▪▪▪▪▪▪▪▪ ▪▪▪▪▪▪▪▪▪▪▪▪▪▪▪▪▪▪▪▪▪▪	▪▪▪▪▪▪▪▪▪▪▪▪▪▪▪▪▪▪▪▪▪▪▪▪▪▪▪▪▪▪▪▪▪▪▪▪▪▪▪▪▪▪▪▪▪▪▪▪▪
▪▪▪▪▪▪▪▪▪▪▪▪▪▪▪▪▪▪▪▪▪▪	▪▪▪▪▪▪▪▪▪▪▪ ▪▪▪▪▪▪▪▪▪▪▪▪▪▪▪▪▪▪▪▪▪▪▪▪▪▪▪▪▪▪▪▪▪▪▪▪▪▪▪▪▪▪▪▪▪▪▪▪▪▪▪▪▪▪▪▪▪▪▪▪▪▪▪▪▪▪▪▪▪▪▪▪▪▪▪▪▪▪▪▪▪▪▪▪▪▪▪▪	▪▪▪▪▪▪▪▪▪▪▪▪▪▪▪▪▪▪▪▪▪▪▪▪▪▪▪▪▪▪ ▪▪▪▪▪▪▪▪▪▪▪▪▪▪▪▪▪▪▪▪▪▪▪▪▪▪▪▪▪▪ ▪▪▪▪▪▪▪▪▪▪▪▪▪▪▪▪▪▪▪▪▪▪▪▪▪▪▪▪▪▪▪▪▪▪▪▪▪▪▪▪▪▪▪▪▪▪▪▪▪▪▪▪▪▪▪▪▪▪▪▪▪▪▪▪▪▪▪▪▪▪▪▪▪▪▪▪▪▪▪▪▪▪▪▪▪▪▪▪	▪▪▪▪▪▪▪▪▪▪▪▪▪▪▪▪▪▪▪▪▪▪ ▪▪▪▪▪▪▪▪▪▪▪▪▪▪▪▪▪▪▪▪▪▪	▪▪▪▪▪▪▪▪▪▪▪▪▪▪▪▪▪▪▪▪▪▪▪▪▪▪▪▪▪▪▪▪▪▪▪▪▪▪▪▪▪▪▪▪▪▪▪▪▪
▪▪▪▪▪▪▪▪▪▪▪▪▪▪▪▪▪▪▪▪▪▪	▪▪▪▪▪▪▪▪▪▪▪ ▪▪▪▪▪▪▪▪▪▪▪▪▪▪▪▪▪▪▪▪▪▪▪▪▪▪▪▪▪▪▪▪▪▪▪▪▪▪▪▪▪▪▪▪▪▪▪▪▪▪▪▪▪▪▪▪▪▪▪▪▪▪▪▪▪▪▪▪▪▪▪▪▪▪▪▪▪▪▪▪▪▪▪▪▪▪▪▪	▪▪▪▪▪▪▪▪▪▪▪▪▪▪▪▪▪▪▪▪▪▪▪▪▪▪▪▪▪▪ ▪▪▪▪▪▪▪▪▪▪▪▪▪▪▪▪▪▪▪▪▪▪▪▪▪▪▪▪▪▪ ▪▪▪▪▪▪▪▪▪▪▪▪▪▪▪▪▪▪▪▪▪▪▪▪▪▪▪▪▪▪▪▪▪▪▪▪▪▪▪▪▪▪▪▪▪▪▪▪▪▪▪▪▪▪▪▪▪▪▪▪▪▪▪▪▪▪▪▪▪▪▪▪▪▪▪▪▪▪▪▪▪▪▪▪▪▪▪▪	▪▪▪▪▪▪▪▪▪▪▪▪▪▪▪▪▪▪▪▪▪▪ ▪▪▪▪▪▪▪▪▪▪▪▪▪▪▪▪▪▪▪▪▪▪	▪▪▪▪▪▪▪▪▪▪▪▪▪▪▪▪▪▪▪▪▪▪▪▪▪▪▪▪▪▪▪▪▪▪▪▪▪▪▪▪▪▪▪▪▪▪▪▪▪
▪▪▪▪▪▪▪▪▪▪▪▪▪▪▪▪▪▪▪▪▪▪	▪▪▪▪▪▪▪▪▪▪▪ ▪▪▪▪▪▪▪▪▪▪▪▪▪▪▪▪▪▪▪▪▪▪▪▪▪▪▪▪▪▪▪▪▪▪▪▪▪▪▪▪▪▪▪▪▪▪▪▪▪▪▪▪▪▪▪▪▪▪▪▪▪▪▪▪▪▪▪▪▪▪▪▪▪▪▪▪▪▪▪▪▪▪▪▪▪▪▪▪	▪▪▪▪▪▪▪▪▪▪▪▪▪▪▪▪▪▪▪▪▪▪▪▪▪▪▪▪▪▪ ▪▪▪▪▪▪▪▪▪▪▪▪▪▪▪▪▪▪▪▪▪▪▪▪▪▪▪▪▪▪ ▪▪▪▪▪▪▪▪▪▪▪▪▪▪▪▪▪▪▪▪▪▪▪▪▪▪▪▪▪▪▪▪▪▪▪▪▪▪▪▪▪▪▪▪▪▪▪▪▪▪▪▪▪▪▪▪▪▪▪▪▪▪▪▪▪▪▪▪▪▪▪▪▪▪▪▪▪▪▪▪▪▪▪▪▪▪▪▪	▪▪▪▪▪▪▪▪▪▪▪▪▪▪▪▪▪▪▪▪▪▪ ▪▪▪▪▪▪▪▪▪▪▪▪▪▪▪▪▪▪▪▪▪▪	▪▪▪▪▪▪▪▪▪▪▪▪▪▪▪▪▪▪▪▪▪▪▪▪▪▪▪▪▪▪▪▪▪▪▪▪▪▪▪▪▪▪▪▪▪▪▪▪▪
▪▪▪▪▪▪▪▪▪▪▪▪▪▪▪▪▪▪▪▪▪▪	▪▪▪▪▪▪▪▪▪▪▪ ▪▪▪▪▪▪▪▪▪▪▪▪▪▪▪▪▪▪▪▪▪▪▪▪▪▪▪▪▪▪▪▪▪▪▪▪▪▪▪▪▪▪▪▪▪▪▪▪▪▪▪▪▪▪▪▪▪▪▪▪▪▪▪▪▪▪▪▪▪▪▪▪▪▪▪▪▪▪▪▪▪▪▪▪▪▪▪▪	▪▪▪▪▪▪▪▪▪▪▪▪▪▪▪▪▪▪▪▪▪▪▪▪▪▪▪▪▪▪ ▪▪▪▪▪▪▪▪▪▪▪▪▪▪▪▪▪▪▪▪▪▪▪▪▪▪▪▪▪▪ ▪▪▪▪▪▪▪▪▪▪▪▪▪▪▪▪▪▪▪▪▪▪▪▪▪▪▪▪▪▪▪▪▪▪▪▪▪▪▪▪▪▪▪▪▪▪▪▪▪▪▪▪▪▪▪▪▪▪▪▪▪▪▪▪▪▪▪▪▪▪▪▪▪▪▪▪▪▪▪▪▪▪▪▪▪▪▪▪	▪▪▪▪▪▪▪▪▪▪▪▪▪▪▪▪▪▪▪▪▪▪ ▪▪▪▪▪▪▪▪▪▪▪▪▪▪▪▪▪▪▪▪▪▪	▪▪▪▪▪▪▪▪▪▪▪▪▪▪▪▪▪▪▪▪▪▪▪▪▪▪▪▪▪▪▪▪▪▪▪▪▪▪▪▪▪▪▪▪▪▪▪▪▪
▪▪▪▪▪▪▪▪▪▪▪▪▪▪▪▪▪▪▪▪▪▪	▪▪▪▪▪▪▪▪▪▪▪ ▪▪▪▪▪▪▪▪▪▪▪▪▪▪▪▪▪▪▪▪▪▪▪▪▪▪▪▪▪▪▪▪▪▪▪▪▪▪▪▪▪▪▪▪▪▪▪▪▪▪▪▪▪▪▪▪▪▪▪▪▪▪▪▪▪▪▪▪▪▪▪▪▪▪▪▪▪▪▪▪▪▪▪▪▪▪▪▪	▪▪▪▪▪▪▪▪▪▪▪▪▪▪▪▪▪▪▪▪▪▪▪▪▪▪▪▪▪▪ ▪▪▪▪▪▪▪▪▪▪▪▪▪▪▪▪▪▪▪▪▪▪▪▪▪▪▪▪▪▪ ▪▪▪▪▪▪▪▪▪▪▪▪▪▪▪▪▪▪▪▪▪▪▪▪▪▪▪▪▪▪▪▪▪▪▪▪▪▪▪▪▪▪▪▪▪▪▪▪▪▪▪▪▪▪▪▪▪▪▪▪▪▪▪▪▪▪▪▪▪▪▪▪▪▪▪▪▪▪▪▪▪▪▪▪▪▪▪▪	▪▪▪▪▪▪▪▪▪▪▪▪▪▪▪▪▪▪▪▪▪▪ ▪▪▪▪▪▪▪▪▪▪▪▪▪▪▪▪▪▪▪▪▪▪	▪▪▪▪▪▪▪▪▪▪▪▪▪▪▪▪▪▪▪▪▪▪▪▪▪▪▪▪▪▪▪▪▪▪▪▪▪▪▪▪▪▪▪▪▪▪▪▪▪
▪▪▪▪▪▪▪▪▪▪▪▪▪▪▪▪▪▪▪▪▪▪	▪▪▪▪▪▪▪▪▪▪▪ ▪▪▪▪▪▪▪▪▪▪▪▪▪▪▪▪▪▪▪▪▪▪▪▪▪▪▪▪▪▪▪▪▪▪▪▪▪▪▪▪▪▪▪▪▪▪▪▪▪▪▪▪▪▪▪▪▪▪▪▪▪▪▪▪▪▪▪▪▪▪▪▪▪▪▪▪▪▪▪▪▪▪▪▪▪▪▪▪	▪▪▪▪▪▪▪▪▪▪▪▪▪▪▪▪▪▪▪▪▪▪▪▪▪▪▪▪▪▪ ▪▪▪▪▪▪▪▪▪▪▪▪▪▪▪▪▪▪▪▪▪▪▪▪▪▪▪▪▪▪ ▪▪▪▪▪▪▪▪▪▪▪▪▪▪▪▪▪▪▪▪▪▪▪▪▪▪▪▪▪▪▪▪▪▪▪▪▪▪▪▪▪▪▪▪▪▪▪▪▪▪▪▪▪▪▪▪▪▪▪▪▪▪▪▪▪▪▪▪▪▪▪▪▪▪▪▪▪▪▪▪▪▪▪▪▪▪▪▪	▪▪▪▪▪▪▪▪▪▪▪▪▪▪▪▪▪▪▪▪▪▪ ▪▪▪▪▪▪▪▪▪▪▪▪▪▪▪▪▪▪▪▪▪▪	▪▪▪▪▪▪▪▪▪▪▪▪▪▪▪▪▪▪▪▪▪▪▪▪▪▪▪▪▪▪▪▪▪▪▪▪▪▪▪▪▪▪▪▪▪▪▪▪▪
▪▪▪▪▪▪▪▪▪▪▪▪▪▪▪▪▪▪▪▪▪▪	▪▪▪▪▪▪▪▪▪▪▪ ▪▪▪▪▪▪▪▪▪▪▪▪▪▪▪▪▪▪▪▪▪▪▪▪▪▪▪▪▪▪▪▪▪▪▪▪▪▪▪▪▪▪▪▪▪▪▪▪▪▪▪▪▪▪▪▪▪▪▪▪▪▪▪▪▪▪▪▪▪▪▪▪▪▪▪▪▪▪▪▪▪▪▪▪▪▪▪▪	▪▪▪▪▪▪▪▪▪▪▪▪▪▪▪▪▪▪▪▪▪▪▪▪▪▪▪▪▪▪ ▪▪▪▪▪▪▪▪▪▪▪▪▪▪▪▪▪▪▪▪▪▪▪▪▪▪▪▪▪▪ ▪▪▪▪▪▪▪▪▪▪▪▪▪▪▪▪▪▪▪▪▪▪▪▪▪▪▪▪▪▪▪▪▪▪▪▪▪▪▪▪▪▪▪▪▪▪▪▪▪▪▪▪▪▪▪▪▪▪▪▪▪▪▪▪▪▪▪▪▪▪▪▪▪▪▪▪▪▪▪▪▪▪▪▪▪▪▪▪	▪▪▪▪▪▪▪▪▪▪▪▪▪▪▪▪▪▪▪▪▪▪ ▪▪▪▪▪▪▪▪▪▪▪▪▪▪▪▪▪▪▪▪▪▪	▪▪▪▪▪▪▪▪▪▪▪▪▪▪▪▪▪▪▪▪▪▪▪▪▪▪▪▪▪▪▪▪▪▪▪▪▪▪▪▪▪▪▪▪▪▪▪▪▪
▪▪▪▪▪▪▪▪▪▪▪▪▪▪▪▪▪▪▪▪▪▪	▪▪▪▪▪▪▪▪▪▪▪ ▪▪▪▪▪▪▪▪▪▪▪▪▪▪▪▪▪▪▪▪▪▪▪▪▪▪▪▪▪▪▪▪▪▪▪▪▪▪▪▪▪▪▪▪▪▪▪▪▪▪▪▪▪▪▪▪▪▪▪▪▪▪▪▪▪▪▪▪▪▪▪▪▪▪▪▪▪▪▪▪▪▪▪▪▪▪▪▪	▪▪▪▪▪▪▪▪▪▪▪▪▪▪▪▪▪▪▪▪▪▪▪▪▪▪▪▪▪▪ ▪▪▪▪▪▪▪▪▪▪▪▪▪▪▪▪▪▪▪▪▪▪▪▪▪▪▪▪▪▪ ▪▪▪▪▪▪▪▪▪▪▪▪▪▪▪▪▪▪▪▪▪▪▪▪▪▪▪▪▪▪▪▪▪▪▪▪▪▪▪▪▪▪▪▪▪▪▪▪▪▪▪▪▪▪▪▪▪▪▪▪▪▪▪▪▪▪▪▪▪▪▪▪▪▪▪▪▪▪▪▪▪▪▪▪▪▪▪▪	▪▪▪▪▪▪▪▪▪▪▪▪▪▪▪▪▪▪▪▪▪▪ ▪▪▪▪▪▪▪▪▪▪▪▪▪▪▪▪▪▪▪▪▪▪	▪▪▪▪▪▪▪▪▪▪▪▪▪▪▪▪▪▪▪▪▪▪▪▪▪▪▪▪▪▪▪▪▪▪▪▪▪▪▪▪▪▪▪▪▪▪▪▪▪
▪▪▪▪▪▪▪▪▪▪▪▪▪▪▪▪▪▪▪▪▪▪	▪▪▪▪▪▪▪▪▪▪▪ ▪▪▪▪▪▪▪▪▪▪▪▪▪▪▪▪▪▪▪▪▪▪▪▪▪▪▪▪▪▪▪▪▪▪▪▪▪▪▪▪▪▪▪▪▪▪▪▪▪▪▪▪▪▪▪▪▪▪▪▪▪▪▪▪▪▪▪▪▪▪▪▪▪▪▪▪▪▪▪▪▪▪▪▪▪▪▪▪	▪▪▪▪▪▪▪▪▪▪▪▪▪▪▪▪▪▪▪▪▪▪▪▪▪▪▪▪▪▪ ▪▪▪▪▪▪▪▪▪▪▪▪▪▪▪▪▪▪▪▪▪▪▪▪▪▪▪▪▪▪ ▪▪▪▪▪▪▪▪▪▪▪▪▪▪▪▪▪▪▪▪▪▪▪▪▪▪▪▪▪▪▪▪▪▪▪▪▪▪▪▪▪▪▪▪▪▪▪▪▪▪▪▪▪▪▪▪▪▪▪▪▪▪▪▪▪▪▪▪▪▪▪▪▪▪▪▪▪▪▪▪▪▪▪▪▪▪▪▪	▪▪▪▪▪▪▪▪▪▪▪▪▪▪▪▪▪▪▪▪▪▪ ▪▪▪▪▪▪▪▪▪▪▪▪▪▪▪▪▪▪▪▪▪▪	▪▪▪▪▪▪▪▪▪▪▪▪▪▪▪▪▪▪▪▪▪▪▪▪▪▪▪▪▪▪▪▪▪▪▪▪▪▪▪▪▪▪▪▪▪▪▪▪▪
▪▪▪▪▪▪▪▪▪▪▪▪▪▪▪▪▪▪▪▪▪▪	▪▪▪▪▪▪▪▪▪▪▪ ▪▪▪▪▪▪▪▪▪▪▪▪▪▪▪▪▪▪▪▪▪▪▪▪▪▪▪▪▪▪▪▪▪▪▪▪▪▪▪▪▪▪▪▪▪▪▪▪▪▪▪▪▪▪▪▪▪▪▪▪▪▪▪▪▪▪▪▪▪▪▪▪▪▪▪▪▪▪▪▪▪▪▪▪▪▪▪▪	▪▪▪▪▪▪▪▪▪▪▪▪▪▪▪▪▪▪▪▪▪▪▪▪▪▪▪▪▪▪ ▪▪▪▪▪▪▪▪▪▪▪▪▪▪▪▪▪▪▪▪▪▪▪▪▪▪▪▪▪▪ ▪▪▪▪▪▪▪▪▪▪▪▪▪▪▪▪▪▪▪▪▪▪▪▪▪▪▪▪▪▪▪▪▪▪▪▪▪▪▪▪▪▪▪▪▪▪▪▪▪▪▪▪▪▪▪▪▪▪▪▪▪▪▪▪▪▪▪▪▪▪▪▪▪▪▪▪▪▪▪▪▪▪▪▪▪▪▪▪	▪▪▪▪▪▪▪▪▪▪▪▪▪▪▪▪▪▪▪▪▪▪ ▪▪▪▪▪▪▪▪▪▪▪▪▪▪▪▪▪▪▪▪▪▪	▪▪▪▪▪▪▪▪▪▪▪▪▪▪▪▪▪▪▪▪▪▪▪▪▪▪▪▪▪▪▪▪▪▪▪▪▪▪▪▪▪▪▪▪▪▪▪▪▪
▪▪▪▪▪▪▪▪▪▪▪▪▪▪▪▪▪▪▪▪▪▪	▪▪▪▪▪▪▪▪▪▪▪ ▪▪▪▪▪▪▪▪▪▪▪▪▪▪▪▪▪▪▪▪▪▪▪▪▪▪▪▪▪▪▪▪▪▪▪▪▪▪▪▪▪▪▪▪▪▪▪▪▪▪▪▪▪▪▪▪▪▪▪▪▪▪▪▪▪▪▪▪▪▪▪▪▪▪▪▪▪▪▪▪▪▪▪▪▪▪▪▪	▪▪▪▪▪▪▪▪▪▪▪▪▪▪▪▪▪▪▪▪▪▪▪▪▪▪▪▪▪▪ ▪▪▪▪▪▪▪▪▪▪▪▪▪▪▪▪▪▪▪▪▪▪▪▪▪▪▪▪▪▪ ▪▪▪▪▪▪▪▪▪▪▪▪▪▪▪▪▪▪▪▪▪▪▪▪▪▪▪▪▪▪▪▪▪▪▪▪▪▪▪▪▪▪▪▪▪▪▪▪▪▪▪▪▪▪▪▪▪▪▪▪▪▪▪▪▪▪▪▪▪▪▪▪▪▪▪▪▪▪▪▪▪▪▪▪▪▪▪▪	▪▪▪▪▪▪▪▪▪▪▪▪▪▪▪▪▪▪▪▪▪▪ ▪▪▪▪▪▪▪▪▪▪▪▪▪▪▪▪▪▪▪▪▪▪	▪▪▪▪▪▪▪▪▪▪▪▪▪▪▪▪▪▪▪▪▪▪▪▪▪▪▪▪▪▪▪▪▪▪▪▪▪▪▪▪▪▪▪▪▪▪▪▪▪
▪▪▪▪▪▪▪▪▪▪▪▪▪▪▪▪▪▪▪▪▪▪	▪▪▪▪▪▪▪▪▪▪▪ ▪▪▪▪▪▪▪▪▪▪▪▪▪▪▪▪▪▪▪▪▪▪▪▪▪▪▪▪▪▪▪▪▪▪▪▪▪▪▪▪▪▪▪▪▪▪▪▪▪▪▪▪▪▪▪▪▪▪▪▪▪▪▪▪▪▪▪▪▪▪▪▪▪▪▪▪▪▪▪▪▪▪▪▪▪▪▪▪	▪▪▪▪▪▪▪▪▪▪▪▪▪▪▪▪▪▪▪▪▪▪▪▪▪▪▪▪▪▪ ▪▪▪▪▪▪▪▪▪▪▪▪▪▪▪▪▪▪▪▪▪▪▪▪▪▪▪▪▪▪ ▪▪▪▪▪▪▪▪▪▪▪▪▪▪▪▪▪▪▪▪▪▪▪▪▪▪▪▪▪▪▪▪▪▪▪▪▪▪▪▪▪▪▪▪▪▪▪▪▪▪▪▪▪▪▪▪▪▪▪▪▪▪▪▪▪▪▪▪▪▪▪▪▪▪▪▪▪▪▪▪▪▪▪▪▪▪▪▪	▪▪▪▪▪▪▪▪▪▪▪▪▪▪▪▪▪▪▪▪▪▪ ▪▪▪▪▪▪▪▪▪▪▪▪▪▪▪▪▪▪▪▪▪▪	▪▪▪▪▪▪▪▪▪▪▪▪▪▪▪▪▪▪▪▪▪▪▪▪▪▪▪▪▪▪▪▪▪▪▪▪▪▪▪▪▪▪▪▪▪▪▪▪▪
▪▪▪▪▪▪▪▪▪▪▪▪▪▪▪▪▪▪▪▪▪▪	▪▪▪▪▪▪▪▪▪▪▪ ▪▪▪▪▪▪▪▪▪▪▪▪▪▪▪▪▪▪▪▪▪▪▪▪▪▪▪▪▪▪▪▪▪▪▪▪▪▪▪▪▪▪▪▪▪▪▪▪▪▪▪▪▪▪▪▪▪▪▪▪▪▪▪▪▪▪▪▪▪▪▪▪▪▪▪▪▪▪▪▪▪▪▪▪▪▪▪▪	▪▪▪▪▪▪▪▪▪▪▪▪▪▪▪▪▪▪▪▪▪▪▪▪▪▪▪▪▪▪ ▪▪▪▪▪▪▪▪▪▪▪▪▪▪▪▪▪▪▪▪▪▪▪▪▪▪▪▪▪▪ ▪▪▪▪▪▪▪▪▪▪▪▪▪▪▪▪▪▪▪▪▪▪▪▪▪▪▪▪▪▪▪▪▪▪▪▪▪▪▪▪▪▪▪▪▪▪▪▪▪▪▪▪▪▪▪▪▪▪▪▪▪▪▪▪▪▪▪▪▪▪▪▪▪▪▪▪▪▪▪▪▪▪▪▪▪▪▪▪	▪▪▪▪▪▪▪▪▪▪▪▪▪▪▪▪▪▪▪▪▪▪ ▪▪▪▪▪▪▪▪▪▪▪▪▪▪▪▪▪▪▪▪▪▪	▪▪▪▪▪▪▪▪▪▪▪▪▪▪▪▪▪▪▪▪▪▪▪▪▪▪▪▪▪▪▪▪▪▪▪▪▪▪▪▪▪▪▪▪▪▪▪▪▪
▪▪▪▪▪▪▪▪▪▪▪▪▪▪▪▪▪▪▪▪▪▪	▪▪▪▪▪▪▪▪▪▪▪ ▪▪▪▪▪▪▪▪▪▪▪▪▪▪▪▪▪▪▪▪▪▪▪▪▪▪▪▪▪▪▪▪▪▪▪▪▪▪▪▪▪▪▪▪▪▪▪▪▪▪▪▪▪▪▪▪▪▪▪▪▪▪▪▪▪▪▪▪▪▪▪▪▪▪▪▪▪▪▪▪▪▪▪▪▪▪▪▪	▪▪▪▪▪▪▪▪▪▪▪▪▪▪▪▪▪▪▪▪▪▪▪▪▪▪▪▪▪▪ ▪▪▪▪▪▪▪▪▪▪▪▪▪▪▪▪▪▪▪▪▪▪▪▪▪▪▪▪▪▪ ▪▪▪▪▪▪▪▪▪▪▪▪▪▪▪▪▪▪▪▪▪▪▪▪▪▪▪▪▪▪▪▪▪▪▪▪▪▪▪▪▪▪▪▪▪▪▪▪▪▪▪▪▪▪▪▪▪▪▪▪▪▪▪▪▪▪▪▪▪▪▪▪▪▪▪▪▪▪▪▪▪▪▪▪▪▪▪▪	▪▪▪▪▪▪▪▪▪▪▪▪▪▪▪▪▪▪▪▪▪▪ ▪▪▪▪▪▪▪▪▪▪▪▪▪▪▪▪▪▪▪▪▪▪	▪▪▪▪▪▪▪▪▪▪▪▪▪▪▪▪▪▪▪▪▪▪▪▪▪▪▪▪▪▪▪▪▪▪▪▪▪▪▪▪▪▪▪▪▪▪▪▪▪
▪▪▪▪▪▪▪▪▪▪▪▪▪▪▪▪▪▪▪▪▪▪	▪▪▪▪▪▪▪▪▪▪▪ ▪▪▪▪▪▪▪▪▪▪▪▪▪▪▪▪▪▪▪▪▪▪▪▪▪▪▪▪▪▪▪▪▪▪▪▪▪▪▪▪▪▪▪▪▪▪▪▪▪▪▪▪▪▪▪▪▪▪▪▪▪▪▪▪▪▪▪▪▪▪▪▪▪▪▪▪▪▪▪▪▪▪▪▪▪▪▪▪	▪▪▪▪▪▪▪▪▪▪▪▪▪▪▪▪▪▪▪▪▪▪▪▪▪▪▪▪▪▪ ▪▪▪▪▪▪▪▪▪▪▪▪▪▪▪▪▪▪▪▪▪▪▪▪▪▪▪▪▪▪ ▪▪▪▪▪▪▪▪▪▪▪▪▪▪▪▪▪▪▪▪▪▪▪▪▪▪▪▪▪▪▪▪▪▪▪▪▪▪▪▪▪▪▪▪▪▪▪▪▪▪▪▪▪▪▪▪▪▪▪▪▪▪▪▪▪▪▪▪▪▪▪▪▪▪▪▪▪▪▪▪▪▪▪▪▪▪▪▪	▪▪▪▪▪▪▪▪▪▪▪▪▪▪▪▪▪▪▪▪▪▪ ▪▪▪▪▪▪▪▪▪▪▪▪▪▪▪▪▪▪▪▪▪▪	▪▪▪▪▪▪▪▪▪▪▪▪▪▪▪▪▪▪▪▪▪▪▪▪▪▪▪▪▪▪▪▪▪▪▪▪▪▪▪▪▪▪▪▪▪▪▪▪▪
▪▪▪▪▪▪▪▪▪▪▪▪▪▪▪▪▪▪▪▪▪▪	▪▪▪▪▪▪▪▪▪▪▪ ▪▪▪▪▪▪▪▪▪▪▪▪▪▪▪▪▪▪▪▪▪▪▪▪▪▪▪▪▪▪▪▪▪▪▪▪▪▪▪▪▪▪▪▪▪▪▪▪▪▪▪▪▪▪▪▪▪▪▪▪▪▪▪▪▪▪▪▪▪▪▪▪▪▪▪▪▪▪▪▪▪▪▪▪▪▪▪▪	▪▪▪▪▪▪▪▪▪▪▪▪▪▪▪▪▪▪▪▪▪▪▪▪▪▪▪▪▪▪ ▪▪▪▪▪▪▪▪▪▪▪▪▪▪▪▪▪▪▪▪▪▪▪▪▪▪▪▪▪▪ ▪▪▪▪▪▪▪▪▪▪▪▪▪▪▪▪▪▪▪▪▪▪▪▪▪▪▪▪▪▪▪▪▪▪▪▪▪▪▪▪▪▪▪▪▪▪▪▪▪▪▪▪▪▪▪▪▪▪▪▪▪▪▪▪▪▪▪▪▪▪▪▪▪▪▪▪▪▪▪▪▪▪▪▪▪▪▪▪	▪▪▪▪▪▪▪▪▪▪▪▪▪▪▪▪▪▪▪▪▪▪ ▪▪▪▪▪▪▪▪▪▪▪▪▪▪▪▪▪▪▪▪▪▪	▪▪▪▪▪▪▪▪▪▪▪▪▪▪▪▪▪▪▪▪▪▪▪▪▪▪▪▪▪▪▪▪▪▪▪▪▪▪▪▪▪▪▪▪▪▪▪▪▪
▪▪▪▪▪▪▪▪▪▪▪▪▪▪▪▪▪▪▪▪▪▪	▪▪▪▪▪▪▪▪▪▪▪ ▪▪▪▪▪▪▪▪▪▪▪▪▪▪▪▪▪▪▪▪▪▪▪▪▪▪▪▪▪▪▪▪▪▪▪▪▪▪▪▪▪▪▪▪▪▪▪▪▪▪▪▪▪▪▪▪▪▪▪▪▪▪▪▪▪▪▪▪▪▪▪▪▪▪▪▪▪▪▪▪▪▪▪▪▪▪▪▪	▪▪▪▪▪▪▪▪▪▪▪▪▪▪▪▪▪▪▪▪▪▪▪▪▪▪▪▪▪▪ ▪▪▪▪▪▪▪▪▪▪▪▪▪▪▪▪▪▪▪▪▪▪▪▪▪▪▪▪▪▪ ▪▪▪▪▪▪▪▪▪▪▪▪▪▪▪▪▪▪▪▪▪▪▪▪▪▪▪▪▪▪▪▪▪▪▪▪▪▪▪▪▪▪▪▪▪▪▪▪▪▪▪▪▪▪▪▪▪▪▪▪▪▪▪▪▪▪▪▪▪▪▪▪▪▪▪▪▪▪▪▪▪▪▪▪▪▪▪▪	▪▪▪▪▪▪▪▪▪▪▪▪▪▪▪▪▪▪▪▪▪▪ ▪▪▪▪▪▪▪▪▪▪▪▪▪▪▪▪▪▪▪▪▪▪	▪▪▪▪▪▪▪▪▪▪▪▪▪▪▪▪▪▪▪▪▪▪▪▪▪▪▪▪▪▪▪▪▪▪▪▪▪▪▪▪▪▪▪▪▪▪▪▪▪
▪▪▪▪▪▪▪▪▪▪▪▪▪▪▪▪▪▪▪▪▪▪	▪▪▪▪▪▪▪▪▪▪▪ ▪▪▪▪▪▪▪▪▪▪▪▪▪▪▪▪▪▪▪▪▪▪▪▪▪▪▪▪▪▪▪▪▪▪▪▪▪▪▪▪▪▪▪▪▪▪▪▪▪▪▪▪▪▪▪▪▪▪▪▪▪▪▪▪▪▪▪▪▪▪▪▪▪▪▪▪▪▪▪▪▪▪▪▪▪▪▪▪	▪▪▪▪▪▪▪▪▪▪▪▪▪▪▪▪▪▪▪▪▪▪▪▪▪▪▪▪▪▪ ▪▪▪▪▪▪▪▪▪▪▪▪▪▪▪▪▪▪▪▪▪▪▪▪▪▪▪▪▪▪ ▪▪▪▪▪▪▪▪▪▪▪▪▪▪▪▪▪▪▪▪▪▪▪▪▪▪▪▪▪▪▪▪▪▪▪▪▪▪▪▪▪▪▪▪▪▪▪▪▪▪▪▪▪▪▪▪▪▪▪▪▪▪▪▪▪▪▪▪▪▪▪▪▪▪▪▪▪▪▪▪▪▪▪▪▪▪▪▪	▪▪▪▪▪▪▪▪▪▪▪▪▪▪▪▪▪▪▪▪▪▪ ▪▪▪▪▪▪▪▪▪▪▪▪▪▪▪▪▪▪▪▪▪▪	▪▪▪▪▪▪▪▪▪▪▪▪▪▪▪▪▪▪▪▪▪▪▪▪▪▪▪▪▪▪▪▪▪▪▪▪▪▪▪▪▪▪▪▪▪▪▪▪▪
▪▪▪▪▪▪▪▪▪▪▪▪▪▪▪▪▪▪▪▪▪▪	▪▪▪▪▪▪▪▪▪▪▪ ▪▪▪▪▪▪▪▪▪▪▪▪▪▪▪▪▪▪▪▪▪▪▪▪▪▪▪▪▪▪▪▪▪▪▪▪▪▪▪▪▪▪▪▪▪▪▪▪▪▪▪▪▪▪▪▪▪▪▪▪▪▪▪▪▪▪▪▪▪▪▪▪▪▪▪▪▪▪▪▪▪▪▪▪▪▪▪▪	▪▪▪▪▪▪▪▪▪▪▪▪▪▪▪▪▪▪▪▪▪▪▪▪▪▪▪▪▪▪ ▪▪▪▪▪▪▪▪▪▪▪▪▪▪▪▪▪▪▪▪▪▪▪▪▪▪▪▪▪▪ ▪▪▪▪▪▪▪▪▪▪▪▪▪▪▪▪▪▪▪▪▪▪▪▪▪▪▪▪▪▪▪▪▪▪▪▪▪▪▪▪▪▪▪▪▪▪▪▪▪▪▪▪▪▪▪▪▪▪▪▪▪▪▪▪▪▪▪▪▪▪▪▪▪▪▪▪▪▪▪▪▪▪▪▪▪▪▪▪	▪▪▪▪▪▪▪▪▪▪▪▪▪▪▪▪▪▪▪▪▪▪ ▪▪▪▪▪▪▪▪▪▪▪▪▪▪▪▪▪▪▪▪▪▪	▪▪▪▪▪▪▪▪▪▪▪▪▪▪▪▪▪▪▪▪▪▪▪▪▪▪▪▪▪▪▪▪▪▪▪▪▪▪▪▪▪▪▪▪▪▪▪▪▪
▪▪▪▪▪▪▪▪▪▪▪▪▪▪▪▪▪▪▪▪▪▪	▪▪▪▪▪▪▪▪▪▪▪ ▪▪▪▪▪▪▪▪▪▪▪▪▪▪▪▪▪▪▪▪▪▪▪▪▪▪▪▪▪▪▪▪▪▪▪▪▪▪▪▪▪▪▪▪▪▪▪▪▪▪▪▪▪▪▪▪▪▪▪▪▪▪▪▪▪▪▪▪▪▪▪▪▪▪▪▪▪▪▪▪▪▪▪▪▪▪▪▪	▪▪▪▪▪▪▪▪▪▪▪▪▪▪▪▪▪▪▪▪▪▪▪▪▪▪▪▪▪▪ ▪▪▪▪▪▪▪▪▪▪▪▪▪▪▪▪▪▪▪▪▪▪▪▪▪▪▪▪▪▪ ▪▪▪▪▪▪▪▪▪▪▪▪▪▪▪▪▪▪▪▪▪▪▪▪▪▪▪▪▪▪▪▪▪▪▪▪▪▪▪▪▪▪▪▪▪▪▪▪▪▪▪▪▪▪▪▪▪▪▪▪▪▪▪▪▪▪▪▪▪▪▪▪▪▪▪▪▪▪▪▪▪▪▪▪▪▪▪▪	▪▪▪▪▪▪▪▪▪▪▪▪▪▪▪▪▪▪▪▪▪▪ ▪▪▪▪▪▪▪▪▪▪▪▪▪▪▪▪▪▪▪▪▪▪	▪▪▪▪▪▪▪▪▪▪▪▪▪▪▪▪▪▪▪▪▪▪▪▪▪▪▪▪▪▪▪▪▪▪▪▪▪▪▪▪▪▪▪▪▪▪▪▪▪
▪▪▪▪▪▪▪▪▪▪▪▪▪▪▪▪▪▪▪▪▪▪	▪▪▪▪▪▪▪▪▪▪▪ ▪▪▪▪▪▪▪▪▪▪▪▪▪▪▪▪▪▪▪▪▪▪▪▪▪▪▪▪▪▪▪▪▪▪▪▪▪▪▪▪▪▪▪▪▪▪▪▪▪▪▪▪▪▪▪▪▪▪▪▪▪▪▪▪▪▪▪▪▪▪▪▪▪▪▪▪▪▪▪▪▪▪▪▪▪▪▪▪	▪▪▪▪▪▪▪▪▪▪▪▪▪▪▪▪▪▪▪▪▪▪▪▪▪▪▪▪▪▪ ▪▪▪▪▪▪▪▪▪▪▪▪▪▪▪▪▪▪▪▪▪▪▪▪▪▪▪▪▪▪ ▪▪▪▪▪▪▪▪▪▪▪▪▪▪▪▪▪▪▪▪▪▪▪▪▪▪▪▪▪▪▪▪▪▪▪▪▪▪▪▪▪▪▪▪▪▪▪▪▪▪▪▪▪▪▪▪▪▪▪▪▪▪▪▪▪▪▪▪▪▪▪▪▪▪▪▪▪▪▪▪▪▪▪▪▪▪▪▪	▪▪▪▪▪▪▪▪▪▪▪▪▪▪▪▪▪▪▪▪▪▪ ▪▪▪▪▪▪▪▪▪▪▪▪▪▪▪▪▪▪▪▪▪▪	▪▪▪▪▪▪▪▪▪▪▪▪▪▪▪▪▪▪▪▪▪▪▪▪▪▪▪▪▪▪▪▪▪▪▪▪▪▪▪▪▪▪▪▪▪▪▪▪▪
▪▪▪▪▪▪▪▪▪▪▪▪▪▪▪▪▪▪▪▪▪▪	▪▪▪▪▪▪▪▪▪▪▪ ▪▪▪▪▪▪▪▪▪▪▪▪▪▪▪▪▪▪▪▪▪▪▪▪▪▪▪▪▪▪▪▪▪▪▪▪▪▪▪▪▪▪▪▪▪▪▪▪▪▪▪▪▪▪▪▪▪▪▪▪▪▪▪▪▪▪▪▪▪▪▪▪▪▪▪▪▪▪▪▪▪▪▪▪▪▪▪▪	▪▪▪▪▪▪▪▪▪▪▪▪▪▪▪▪▪▪▪▪▪▪▪▪▪▪▪▪▪▪ ▪▪▪▪▪▪▪▪▪▪▪▪▪▪▪▪▪▪▪▪▪▪▪▪▪▪▪▪▪▪ ▪▪▪▪▪▪▪▪▪▪▪▪▪▪▪▪▪▪▪▪▪▪▪▪▪▪▪▪▪▪▪▪▪▪▪▪▪▪▪▪▪▪▪▪▪▪▪▪▪▪▪▪▪▪▪▪▪▪▪▪▪▪▪▪▪▪▪▪▪▪▪▪▪▪▪▪▪▪▪▪▪▪▪▪▪▪▪▪	▪▪▪▪▪▪▪▪▪▪▪▪▪▪▪▪▪▪▪▪▪▪ ▪▪▪▪▪▪▪▪▪▪▪▪▪▪▪▪▪▪▪▪▪▪	▪▪▪▪▪▪▪▪▪▪▪▪▪▪▪▪▪▪▪▪▪▪▪▪▪▪▪▪▪▪▪▪▪▪▪▪▪▪▪▪▪▪▪▪▪▪▪▪▪
▪▪▪▪▪▪▪▪▪▪▪▪▪▪▪▪▪▪▪▪▪▪	▪▪▪▪▪▪▪▪▪▪▪ ▪▪▪▪▪▪▪▪▪▪▪▪▪▪▪▪▪▪▪▪▪▪▪▪▪▪▪▪▪▪▪▪▪▪▪▪▪▪▪▪▪▪▪▪▪▪▪▪▪▪▪▪▪▪▪▪▪▪▪▪▪▪▪▪▪▪▪▪▪▪▪▪▪▪▪▪▪▪▪▪▪▪▪▪▪▪▪▪	▪▪▪▪▪▪▪▪▪▪▪▪▪▪▪▪▪▪▪▪▪▪▪▪▪▪▪▪▪▪ ▪▪▪▪▪▪▪▪▪▪▪▪▪▪▪▪▪▪▪▪▪▪▪▪▪▪▪▪▪▪ ▪▪▪▪▪▪▪▪▪▪▪▪▪▪▪▪▪▪▪▪▪▪▪▪▪▪▪▪▪▪▪▪▪▪▪▪▪▪▪▪▪▪▪▪▪▪▪▪▪▪▪▪▪▪▪▪▪▪▪▪▪▪▪▪▪▪▪▪▪▪▪▪▪▪▪▪▪▪▪▪▪▪▪▪▪▪▪▪	▪▪▪▪▪▪▪▪▪▪▪▪▪▪▪▪▪▪▪▪▪▪ ▪▪▪▪▪▪▪▪▪▪▪▪▪▪▪▪▪▪▪▪▪▪	▪▪▪▪▪▪▪▪▪▪▪▪▪▪▪▪▪▪▪▪▪▪▪▪▪▪▪▪▪▪▪▪▪▪▪▪▪▪▪▪▪▪▪▪▪▪▪▪▪
▪▪▪▪▪▪▪▪▪▪▪▪▪▪▪▪▪▪▪▪▪▪	▪▪▪▪▪▪▪▪▪▪▪ ▪▪▪▪▪▪▪▪▪▪▪▪▪▪▪▪▪▪▪▪▪▪▪▪▪▪▪▪▪▪▪▪▪▪▪▪▪▪▪▪▪▪▪▪▪▪▪▪▪▪▪▪▪▪▪▪▪▪▪▪▪▪▪▪▪▪▪▪▪▪▪▪▪▪▪▪▪▪▪▪▪▪▪▪▪▪▪▪	▪▪▪▪▪▪▪▪▪▪▪▪▪▪▪▪▪▪▪▪▪▪▪▪▪▪▪▪▪▪ ▪▪▪▪▪▪▪▪▪▪▪▪▪▪▪▪▪▪▪▪▪▪▪▪▪▪▪▪▪▪ ▪▪▪▪▪▪▪▪▪▪▪▪▪▪▪▪▪▪▪▪▪▪▪▪▪▪▪▪▪▪▪▪▪▪▪▪▪▪▪▪▪▪▪▪▪▪▪▪▪▪▪▪▪▪▪▪▪▪▪▪▪▪▪▪▪▪▪▪▪▪▪▪▪▪▪▪▪▪▪▪▪▪▪▪▪▪▪▪	▪▪▪▪▪▪▪▪▪▪▪▪▪▪▪▪▪▪▪▪▪▪ ▪▪▪▪▪▪▪▪▪▪▪▪▪▪▪▪▪▪▪▪▪▪	▪▪▪▪▪▪▪▪▪▪▪▪▪▪▪▪▪▪▪▪▪▪▪▪▪▪▪▪▪▪▪▪▪▪▪▪▪▪▪▪▪▪▪▪▪▪▪▪▪
▪▪▪▪▪▪▪▪▪▪▪▪▪▪▪▪▪▪▪▪▪▪	▪▪▪▪▪▪▪▪▪▪▪ ▪▪▪▪▪▪▪▪▪▪▪▪▪▪▪▪▪▪▪▪▪▪▪▪▪▪▪▪▪▪▪▪▪▪▪▪▪▪▪▪▪▪▪▪▪▪▪▪▪▪▪▪▪▪▪▪▪▪▪▪▪▪▪▪▪▪▪▪▪▪▪▪▪▪▪▪▪▪▪▪▪▪▪▪▪▪▪▪	▪▪▪▪▪▪▪▪▪▪▪▪▪▪▪▪▪▪▪▪▪▪▪▪▪▪▪▪▪▪ ▪▪▪▪▪▪▪▪▪▪▪▪▪▪▪▪▪▪▪▪▪▪▪▪▪▪▪▪▪▪ ▪▪▪▪▪▪▪▪▪▪▪▪▪▪▪▪▪▪▪▪▪▪▪▪▪▪▪▪▪▪▪▪▪▪▪▪▪▪▪▪▪▪▪▪▪▪▪▪▪▪▪▪▪▪▪▪▪▪▪▪▪▪▪▪▪▪▪▪▪▪▪▪▪▪▪▪▪▪▪▪▪▪▪▪▪▪▪▪	▪▪▪▪▪▪▪▪▪▪▪▪▪▪▪▪▪▪▪▪▪▪ ▪▪▪▪▪▪▪▪▪▪▪▪▪▪▪▪▪▪▪▪▪▪	▪▪▪▪▪▪▪▪▪▪▪▪▪▪▪▪▪▪▪▪▪▪▪▪▪▪▪▪▪▪▪▪▪▪▪▪▪▪▪▪▪▪▪▪▪▪▪▪▪
▪▪▪▪▪▪▪▪▪▪▪▪▪▪▪▪▪▪▪▪▪▪	▪▪▪▪▪▪▪▪▪▪▪ ▪▪▪▪▪▪▪▪▪▪▪▪▪▪▪▪▪▪▪▪▪▪▪▪▪▪▪▪▪▪▪▪▪▪▪▪▪▪▪▪▪▪▪▪▪▪▪▪▪▪▪▪▪▪▪▪▪▪▪▪▪▪▪▪▪▪▪▪▪▪▪▪▪▪▪▪▪▪▪▪▪▪▪▪▪▪▪▪	▪▪▪▪▪▪▪▪▪▪▪▪▪▪▪▪▪▪▪▪▪▪▪▪▪▪▪▪▪▪ ▪▪▪▪▪▪▪▪▪▪▪▪▪▪▪▪▪▪▪▪▪▪▪▪▪▪▪▪▪▪ ▪▪▪▪▪▪▪▪▪▪▪▪▪▪▪▪▪▪▪▪▪▪▪▪▪▪▪▪▪▪▪▪▪▪▪▪▪▪▪▪▪▪▪▪▪▪▪▪▪▪▪▪▪▪▪▪▪▪▪▪▪▪▪▪▪▪▪▪▪▪▪▪▪▪▪▪▪▪▪▪▪▪▪▪▪▪▪▪	▪▪▪▪▪▪▪▪▪▪▪▪▪▪▪▪▪▪▪▪▪▪ ▪▪▪▪▪▪▪▪▪▪▪▪▪▪▪▪▪▪▪▪▪▪	▪▪▪▪▪▪▪▪▪▪▪▪▪▪▪▪▪▪▪▪▪▪▪▪▪▪▪▪▪▪▪▪▪▪▪▪▪▪▪▪▪▪▪▪▪▪▪▪▪
▪▪▪▪▪▪▪▪▪▪▪▪▪▪▪▪▪▪▪▪▪▪	▪▪▪▪▪▪▪▪▪▪▪ ▪▪▪▪▪▪▪▪▪▪▪▪▪▪▪▪▪▪▪▪▪▪▪▪▪▪▪▪▪▪▪▪▪▪▪▪▪▪▪▪▪▪▪▪▪▪▪▪▪▪▪▪▪▪▪▪▪▪▪▪▪▪▪▪▪▪▪▪▪▪▪▪▪▪▪▪▪▪▪▪▪▪▪▪▪▪▪▪	▪▪▪▪▪▪▪▪▪▪▪▪▪▪▪▪▪▪▪▪▪▪▪▪▪▪▪▪▪▪ ▪▪▪▪▪▪▪▪▪▪▪▪▪▪▪▪▪▪▪▪▪▪▪▪▪▪▪▪▪▪ ▪▪▪▪▪▪▪▪▪▪▪▪▪▪▪▪▪▪▪▪▪▪▪▪▪▪▪▪▪▪▪▪▪▪▪▪▪▪▪▪▪▪▪▪▪▪▪▪▪▪▪▪▪▪▪▪▪▪▪▪▪▪▪▪▪▪▪▪▪▪▪▪▪▪▪▪▪▪▪▪▪▪▪▪▪▪▪▪	▪▪▪▪▪▪▪▪▪▪▪▪▪▪▪▪▪▪▪▪▪▪ ▪▪▪▪▪▪▪▪▪▪▪▪▪▪▪▪▪▪▪▪▪▪	▪▪▪▪▪▪▪▪▪▪▪▪▪▪▪▪▪▪▪▪▪▪▪▪▪▪▪▪▪▪▪▪▪▪▪▪▪▪▪▪▪▪▪▪▪▪▪▪▪
▪▪▪▪▪▪▪▪▪▪▪▪▪▪▪▪▪▪▪▪▪▪	▪▪▪▪▪▪▪▪▪▪▪ ▪▪▪▪▪▪▪▪▪▪▪▪▪▪▪▪▪▪▪▪▪▪▪▪▪▪▪▪▪▪▪▪▪▪▪▪▪▪▪▪▪▪▪▪▪▪▪▪▪▪▪▪▪▪▪▪▪▪▪▪▪▪▪▪▪▪▪▪▪▪▪▪▪▪▪▪▪▪▪▪▪▪▪▪▪▪▪▪	▪▪▪▪▪▪▪▪▪▪▪▪▪▪▪▪▪▪▪▪▪▪▪▪▪▪▪▪▪▪ ▪▪▪▪▪▪▪▪▪▪▪▪▪▪▪▪▪▪▪▪▪▪▪▪▪▪▪▪▪▪ ▪▪▪▪▪▪▪▪▪▪▪▪▪▪▪▪▪▪▪▪▪▪▪▪▪▪▪▪▪▪▪▪▪▪▪▪▪▪▪▪▪▪▪▪▪▪▪▪▪▪▪▪▪▪▪▪▪▪▪▪▪▪▪▪▪▪▪▪▪▪▪▪▪▪▪▪▪▪▪▪▪▪▪▪▪▪▪▪	▪▪▪▪▪▪▪▪▪▪▪▪▪▪▪▪▪▪▪▪▪▪ ▪▪▪▪▪▪▪▪▪▪▪▪▪▪▪▪▪▪▪▪▪▪	▪▪▪▪▪▪▪▪▪▪▪▪▪▪▪▪▪▪▪▪▪▪▪▪▪▪▪▪▪▪▪▪▪▪▪▪▪▪▪▪▪▪▪▪▪▪▪▪▪
▪▪▪▪▪▪▪▪▪▪▪▪▪▪▪▪▪▪▪▪▪▪	▪▪▪▪▪▪▪▪▪▪▪ ▪▪▪▪▪▪▪▪▪▪▪▪▪▪▪▪▪▪▪▪▪▪▪▪▪▪▪▪▪▪▪▪▪▪▪▪▪▪▪▪▪▪▪▪▪▪▪▪▪▪▪▪▪▪▪▪▪▪▪▪▪▪▪▪▪▪▪▪▪▪▪▪▪▪▪▪▪▪▪▪▪▪▪▪▪▪▪▪	▪▪▪▪▪▪▪▪▪▪▪▪▪▪▪▪▪▪▪▪▪▪▪▪▪▪▪▪▪▪ ▪▪▪▪▪▪▪▪▪▪▪▪▪▪▪▪▪▪▪▪▪▪▪▪▪▪▪▪▪▪ ▪▪▪▪▪▪▪▪▪▪▪▪▪▪▪▪▪▪▪▪▪▪▪▪▪▪▪▪▪▪▪▪▪▪▪▪▪▪▪▪▪▪▪▪▪▪▪▪▪▪▪▪▪▪▪▪▪▪▪▪▪▪▪▪▪▪▪▪▪▪▪▪▪▪▪▪▪▪▪▪▪▪▪▪▪▪▪▪	▪▪▪▪▪▪▪▪▪▪▪▪▪▪▪▪▪▪▪▪▪▪ ▪▪▪▪▪▪▪▪▪▪▪▪▪▪▪▪▪▪▪▪▪▪	▪▪▪▪▪▪▪▪▪▪▪▪▪▪▪▪▪▪▪▪▪▪▪▪▪▪▪▪▪▪▪▪▪▪▪▪▪▪▪▪▪▪▪▪▪▪▪▪▪
▪▪▪▪▪▪▪▪▪▪▪▪▪▪▪▪▪▪▪▪▪▪	▪▪▪▪▪▪▪▪▪▪▪ ▪▪▪▪▪▪▪▪▪▪▪▪▪▪▪▪▪▪▪▪▪▪▪▪▪▪▪▪▪▪▪▪▪▪▪▪▪▪▪▪▪▪▪▪▪▪▪▪▪▪▪▪▪▪▪▪▪▪▪▪▪▪▪▪▪▪▪▪▪▪▪▪▪▪▪▪▪▪▪▪▪▪▪▪▪▪▪▪	▪▪▪▪▪▪▪▪▪▪▪▪▪▪▪▪▪▪▪▪▪▪▪▪▪▪▪▪▪▪ ▪▪▪▪▪▪▪▪▪▪▪▪▪▪▪▪▪▪▪▪▪▪▪▪▪▪▪▪▪▪ ▪▪▪▪▪▪▪▪▪▪▪▪▪▪▪▪▪▪▪▪▪▪▪▪▪▪▪▪▪▪▪▪▪▪▪▪▪▪▪▪▪▪▪▪▪▪▪▪▪▪▪▪▪▪▪▪▪▪▪▪▪▪▪▪▪▪▪▪▪▪▪▪▪▪▪▪▪▪▪▪▪▪▪▪▪▪▪▪	▪▪▪▪▪▪▪▪▪▪▪▪▪▪▪▪▪▪▪▪▪▪ ▪▪▪▪▪▪▪▪▪▪▪▪▪▪▪▪▪▪▪▪▪▪	▪▪▪▪▪▪▪▪▪▪▪▪▪▪▪▪▪▪▪▪▪▪▪▪▪▪▪▪▪▪▪▪▪▪▪▪▪▪▪▪▪▪▪▪▪▪▪▪▪
▪▪▪▪▪▪▪▪▪▪▪▪▪▪▪▪▪▪▪▪▪▪	▪▪▪▪▪▪▪▪▪▪▪ ▪▪▪▪▪▪▪▪▪▪▪▪▪▪▪▪▪▪▪▪▪▪▪▪▪▪▪▪▪▪▪▪▪▪▪▪▪▪▪▪▪▪▪▪▪▪▪▪▪▪▪▪▪▪▪▪▪▪▪▪▪▪▪▪▪▪▪▪▪▪▪▪▪▪▪▪▪▪▪▪▪▪▪▪▪▪▪▪	▪▪▪▪▪▪▪▪▪▪▪▪▪▪▪▪▪▪▪▪▪▪▪▪▪▪▪▪▪▪ ▪▪▪▪▪▪▪▪▪▪▪▪▪▪▪▪▪▪▪▪▪▪▪▪▪▪▪▪▪▪ ▪▪▪▪▪▪▪▪▪▪▪▪▪▪▪▪▪▪▪▪▪▪▪▪▪▪▪▪▪▪▪▪▪▪▪▪▪▪▪▪▪▪▪▪▪▪▪▪▪▪▪▪▪▪▪▪▪▪▪▪▪▪▪▪▪▪▪▪▪▪▪▪▪▪▪▪▪▪▪▪▪▪▪▪▪▪▪▪	▪▪▪▪▪▪▪▪▪▪▪▪▪▪▪▪▪▪▪▪▪▪ ▪▪▪▪▪▪▪▪▪▪▪▪▪▪▪▪▪▪▪▪▪▪	▪▪▪▪▪▪▪▪▪▪▪▪▪▪▪▪▪▪▪▪▪▪▪▪▪▪▪▪▪▪▪▪▪▪▪▪▪▪▪▪▪▪▪▪▪▪▪▪▪
▪▪▪▪▪▪▪▪▪▪▪▪▪▪▪▪▪▪▪▪▪▪	▪▪▪▪▪▪▪▪▪▪▪ ▪▪▪▪▪▪▪▪▪▪▪▪▪▪▪▪▪▪▪▪▪▪▪▪▪▪▪▪▪▪▪▪▪▪▪▪▪▪▪▪▪▪▪▪▪▪▪▪▪▪▪▪▪▪▪▪▪▪▪▪▪▪▪▪▪▪▪▪▪▪▪▪▪▪▪▪▪▪▪▪▪▪▪▪▪▪▪▪	▪▪▪▪▪▪▪▪▪▪▪▪▪▪▪▪▪▪▪▪▪▪▪▪▪▪▪▪▪▪ ▪▪▪▪▪▪▪▪▪▪▪▪▪▪▪▪▪▪▪▪▪▪▪▪▪▪▪▪▪▪ ▪▪▪▪▪▪▪▪▪▪▪▪▪▪▪▪▪▪▪▪▪▪▪▪▪▪▪▪▪▪▪▪▪▪▪▪▪▪▪▪▪▪▪▪▪▪▪▪▪▪▪▪▪▪▪▪▪▪▪▪▪▪▪▪▪▪▪▪▪▪▪▪▪▪▪▪▪▪▪▪▪▪▪▪▪▪▪▪	▪▪▪▪▪▪▪▪▪▪▪▪▪▪▪▪▪▪▪▪▪▪ ▪▪▪▪▪▪▪▪▪▪▪▪▪▪▪▪▪▪▪▪▪▪	▪▪▪▪▪▪▪▪▪▪▪▪▪▪▪▪▪▪▪▪▪▪▪▪▪▪▪▪▪▪▪▪▪▪▪▪▪▪▪▪▪▪▪▪▪▪▪▪▪
▪▪▪▪▪▪▪▪▪▪▪▪▪▪▪▪▪▪▪▪▪▪	▪▪▪▪▪▪▪▪▪▪▪ ▪▪▪▪▪▪▪▪▪▪▪▪▪▪▪▪▪▪▪▪▪▪▪▪▪▪▪▪▪▪▪▪▪▪▪▪▪▪▪▪▪▪▪▪▪▪▪▪▪▪▪▪▪▪▪▪▪▪▪▪▪▪▪▪▪▪▪▪▪▪▪▪▪▪▪▪▪▪▪▪▪▪▪▪▪▪▪▪	▪▪▪▪▪▪▪▪▪▪▪▪▪▪▪▪▪▪▪▪▪▪▪▪▪▪▪▪▪▪ ▪▪▪▪▪▪▪▪▪▪▪▪▪▪▪▪▪▪▪▪▪▪▪▪▪▪▪▪▪▪ ▪▪▪▪▪▪▪▪▪▪▪▪▪▪▪▪▪▪▪▪▪▪▪▪▪▪▪▪▪▪▪▪▪▪▪▪▪▪▪▪▪▪▪▪▪▪▪▪▪▪▪▪▪▪▪▪▪▪▪▪▪▪▪▪▪▪▪▪▪▪▪▪▪▪▪▪▪▪▪▪▪▪▪▪▪▪▪▪	▪▪▪▪▪▪▪▪▪▪▪▪▪▪▪▪▪▪▪▪▪▪ ▪▪▪▪▪▪▪▪▪▪▪▪▪▪▪▪▪▪▪▪▪▪	▪▪▪▪▪▪▪▪▪▪▪▪▪▪▪▪▪▪▪▪▪▪▪▪▪▪▪▪▪▪▪▪▪▪▪▪▪▪▪▪▪▪▪▪▪▪▪▪▪
▪▪▪▪▪▪▪▪▪▪▪▪▪▪▪▪▪▪▪▪▪▪	▪▪▪▪▪▪▪▪▪▪▪ ▪▪▪▪▪▪▪▪▪▪▪▪▪▪▪▪▪▪▪▪▪▪▪▪▪▪▪▪▪▪▪▪▪▪▪▪▪▪▪▪▪▪▪▪▪▪▪▪▪▪▪▪▪▪▪▪▪▪▪▪▪▪▪▪▪▪▪▪▪▪▪▪▪▪▪▪▪▪▪▪▪▪▪▪▪▪▪▪	▪▪▪▪▪▪▪▪▪▪▪▪▪▪▪▪▪▪▪▪▪▪▪▪▪▪▪▪▪▪ ▪▪▪▪▪▪▪▪▪▪▪▪▪▪▪▪▪▪▪▪▪▪▪▪▪▪▪▪▪▪ ▪▪▪▪▪▪▪▪▪▪▪▪▪▪▪▪▪▪▪▪▪▪▪▪▪▪▪▪▪▪▪▪▪▪▪▪▪▪▪▪▪▪▪▪▪▪▪▪▪▪▪▪▪▪▪▪▪▪▪▪▪▪▪▪▪▪▪▪▪▪▪▪▪▪▪▪▪▪▪▪▪▪▪▪▪▪▪▪	▪▪▪▪▪▪▪▪▪▪▪▪▪▪▪▪▪▪▪▪▪▪ ▪▪▪▪▪▪▪▪▪▪▪▪▪▪▪▪▪▪▪▪▪▪	▪▪▪▪▪▪▪▪▪▪▪▪▪▪▪▪▪▪▪▪▪▪▪▪▪▪▪▪▪▪▪▪▪▪▪▪▪▪▪▪▪▪▪▪▪▪▪▪▪
▪▪▪▪▪▪▪▪▪▪▪▪▪▪▪▪▪▪▪▪▪▪	▪▪▪▪▪▪▪▪▪▪▪ ▪▪▪▪▪▪▪▪▪▪▪▪▪▪▪▪▪▪▪▪▪▪▪▪▪▪▪▪▪▪▪▪▪▪▪▪▪▪▪▪▪▪▪▪▪▪▪▪▪▪▪▪▪▪▪▪▪▪▪▪▪▪▪▪▪▪▪▪▪▪▪▪▪▪▪▪▪▪▪▪▪▪▪▪▪▪▪▪	▪▪▪▪▪▪▪▪▪▪▪▪▪▪▪▪▪▪▪▪▪▪▪▪▪▪▪▪▪▪ ▪▪▪▪▪▪▪▪▪▪▪▪▪▪▪▪▪▪▪▪▪▪▪▪▪▪▪▪▪▪ ▪▪▪▪▪▪▪▪▪▪▪▪▪▪▪▪▪▪▪▪▪▪▪▪▪▪▪▪▪▪▪▪▪▪▪▪▪▪▪▪▪▪▪▪▪▪▪▪▪▪▪▪▪▪▪▪▪▪▪▪▪▪▪▪▪▪▪▪▪▪▪▪▪▪▪▪▪▪▪▪▪▪▪▪▪▪▪▪	▪▪▪▪▪▪▪▪▪▪▪▪▪▪▪▪▪▪▪▪▪▪ ▪▪▪▪▪▪▪▪▪▪▪▪▪▪▪▪▪▪▪▪▪▪	▪▪▪▪▪▪▪▪▪▪▪▪▪▪▪▪▪▪▪▪▪▪▪▪▪▪▪▪▪▪▪▪▪▪▪▪▪▪▪▪▪▪▪▪▪▪▪▪▪
▪▪▪▪▪▪▪▪▪▪▪▪▪▪▪▪▪▪▪▪▪▪	▪▪▪▪▪▪▪▪▪▪▪ ▪▪▪▪▪▪▪▪▪▪▪▪▪▪▪▪▪▪▪▪▪▪▪▪▪▪▪▪▪▪▪▪▪▪▪▪▪▪▪▪▪▪▪▪▪▪▪▪▪▪▪▪▪▪▪▪▪▪▪▪▪▪▪▪▪▪▪▪▪▪▪▪▪▪▪▪▪▪▪▪▪▪▪▪▪▪▪▪	▪▪▪▪▪▪▪▪▪▪▪▪▪▪▪▪▪▪▪▪▪▪▪▪▪▪▪▪▪▪ ▪▪▪▪▪▪▪▪▪▪▪▪▪▪▪▪▪▪▪▪▪▪▪▪▪▪▪▪▪▪ ▪▪▪▪▪▪▪▪▪▪▪▪▪▪▪▪▪▪▪▪▪▪▪▪▪▪▪▪▪▪▪▪▪▪▪▪▪▪▪▪▪▪▪▪▪▪▪▪▪▪▪▪▪▪▪▪▪▪▪▪▪▪▪▪▪▪▪▪▪▪▪▪▪▪▪▪▪▪▪▪▪▪▪▪▪▪▪▪	▪▪▪▪▪▪▪▪▪▪▪▪▪▪▪▪▪▪▪▪▪▪ ▪▪▪▪▪▪▪▪▪▪▪▪▪▪▪▪▪▪▪▪▪▪	▪▪▪▪▪▪▪▪▪▪▪▪▪▪▪▪▪▪▪▪▪▪▪▪▪▪▪▪▪▪▪▪▪▪▪▪▪▪▪▪▪▪▪▪▪▪▪▪▪
▪▪▪▪▪▪▪▪▪▪▪▪▪▪▪▪▪▪▪▪▪▪	▪▪▪▪▪▪▪▪▪▪▪ ▪▪▪▪▪▪▪▪▪▪▪▪▪▪▪▪▪▪▪▪▪▪▪▪▪▪▪▪▪▪▪▪▪▪▪▪▪▪▪▪▪▪▪▪▪▪▪▪▪▪▪▪▪▪▪▪▪▪▪▪▪▪▪▪▪▪▪▪▪▪▪▪▪▪▪▪▪▪▪▪▪▪▪▪▪▪▪▪	▪▪▪▪▪▪▪▪▪▪▪▪▪▪▪▪▪▪▪▪▪▪▪▪▪▪▪▪▪▪ ▪▪▪▪▪▪▪▪▪▪▪▪▪▪▪▪▪▪▪▪▪▪▪▪▪▪▪▪▪▪ ▪▪▪▪▪▪▪▪▪▪▪▪▪▪▪▪▪▪▪▪▪▪▪▪▪▪▪▪▪▪▪▪▪▪▪▪▪▪▪▪▪▪▪▪▪▪▪▪▪▪▪▪▪▪▪▪▪▪▪▪▪▪▪▪▪▪▪▪▪▪▪▪▪▪▪▪▪▪▪▪▪▪▪▪▪▪▪▪	▪▪▪▪▪▪▪▪▪▪▪▪▪▪▪▪▪▪▪▪▪▪ ▪▪▪▪▪▪▪▪▪▪▪▪▪▪▪▪▪▪▪▪▪▪	▪▪▪▪▪▪▪▪▪▪▪▪▪▪▪▪▪▪▪▪▪▪▪▪▪▪▪▪▪▪▪▪▪▪▪▪▪▪▪▪▪▪▪▪▪▪▪▪▪
▪▪▪▪▪▪▪▪▪▪▪▪▪▪▪▪▪▪▪▪▪▪	▪▪▪▪▪▪▪▪▪▪▪ ▪▪▪▪▪▪▪▪▪▪▪▪▪▪▪▪▪▪▪▪▪▪▪▪▪▪▪▪▪▪▪▪▪▪▪▪▪▪▪▪▪▪▪▪▪▪▪▪▪▪▪▪▪▪▪▪▪▪▪▪▪▪▪▪▪▪▪▪▪▪▪▪▪▪▪▪▪▪▪▪▪▪▪▪▪▪▪▪	▪▪▪▪▪▪▪▪▪▪▪▪▪▪▪▪▪▪▪▪▪▪▪▪▪▪▪▪▪▪ ▪▪▪▪▪▪▪▪▪▪▪▪▪▪▪▪▪▪▪▪▪▪▪▪▪▪▪▪▪▪ ▪▪▪▪▪▪▪▪▪▪▪▪▪▪▪▪▪▪▪▪▪▪▪▪▪▪▪▪▪▪▪▪▪▪▪▪▪▪▪▪▪▪▪▪▪▪▪▪▪▪▪▪▪▪▪▪▪▪▪▪▪▪▪▪▪▪▪▪▪▪▪▪▪▪▪▪▪▪▪▪▪▪▪▪▪▪▪▪	▪▪▪▪▪▪▪▪▪▪▪▪▪▪▪▪▪▪▪▪▪▪ ▪▪▪▪▪▪▪▪▪▪▪▪▪▪▪▪▪▪▪▪▪▪	▪▪▪▪▪▪▪▪▪▪▪▪▪▪▪▪▪▪▪▪▪▪▪▪▪▪▪▪▪▪▪▪▪▪▪▪▪▪▪▪▪▪▪▪▪▪▪▪▪
▪▪▪▪▪▪▪▪▪▪▪▪▪▪▪▪▪▪▪▪▪▪	▪▪▪▪▪▪▪▪▪▪▪ ▪▪▪▪▪▪▪▪▪▪▪▪▪▪▪▪▪▪▪▪▪▪▪▪▪▪▪▪▪▪▪▪▪▪▪▪▪▪▪▪▪▪▪▪▪▪▪▪▪▪▪▪▪▪▪▪▪▪▪▪▪▪▪▪▪▪▪▪▪▪▪▪▪▪▪▪▪▪▪▪▪▪▪▪▪▪▪▪	▪▪▪▪▪▪▪▪▪▪▪▪▪▪▪▪▪▪▪▪▪▪▪▪▪▪▪▪▪▪ ▪▪▪▪▪▪▪▪▪▪▪▪▪▪▪▪▪▪▪▪▪▪▪▪▪▪▪▪▪▪ ▪▪▪▪▪▪▪▪▪▪▪▪▪▪▪▪▪▪▪▪▪▪▪▪▪▪▪▪▪▪▪▪▪▪▪▪▪▪▪▪▪▪▪▪▪▪▪▪▪▪▪▪▪▪▪▪▪▪▪▪▪▪▪▪▪▪▪▪▪▪▪▪▪▪▪▪▪▪▪▪▪▪▪▪▪▪▪▪	▪▪▪▪▪▪▪▪▪▪▪▪▪▪▪▪▪▪▪▪▪▪ ▪▪▪▪▪▪▪▪▪▪▪▪▪▪▪▪▪▪▪▪▪▪	▪▪▪▪▪▪▪▪▪▪▪▪▪▪▪▪▪▪▪▪▪▪▪▪▪▪▪▪▪▪▪▪▪▪▪▪▪▪▪▪▪▪▪▪▪▪▪▪▪
▪▪▪▪▪▪▪▪▪▪▪▪▪▪▪▪▪▪▪▪▪▪	▪▪▪▪▪▪▪▪▪▪▪ ▪▪▪▪▪▪▪▪▪▪▪▪▪▪▪▪▪▪▪▪▪▪▪▪▪▪▪▪▪▪▪▪▪▪▪▪▪▪▪▪▪▪▪▪▪▪▪▪▪▪▪▪▪▪▪▪▪▪▪▪▪▪▪▪▪▪▪▪▪▪▪▪▪▪▪▪▪▪▪▪▪▪▪▪▪▪▪▪	▪▪▪▪▪▪▪▪▪▪▪▪▪▪▪▪▪▪▪▪▪▪▪▪▪▪▪▪▪▪ ▪▪▪▪▪▪▪▪▪▪▪▪▪▪▪▪▪▪▪▪▪▪▪▪▪▪▪▪▪▪ ▪▪▪▪▪▪▪▪▪▪▪▪▪▪▪▪▪▪▪▪▪▪▪▪▪▪▪▪▪▪▪▪▪▪▪▪▪▪▪▪▪▪▪▪▪▪▪▪▪▪▪▪▪▪▪▪▪▪▪▪▪▪▪▪▪▪▪▪▪▪▪▪▪▪▪▪▪▪▪▪▪▪▪▪▪▪▪▪	▪▪▪▪▪▪▪▪▪▪▪▪▪▪▪▪▪▪▪▪▪▪ ▪▪▪▪▪▪▪▪▪▪▪▪▪▪▪▪▪▪▪▪▪▪	▪▪▪▪▪▪▪▪▪▪▪▪▪▪▪▪▪▪▪▪▪▪▪▪▪▪▪▪▪▪▪▪▪▪▪▪▪▪▪▪▪▪▪▪▪▪▪▪▪
▪▪▪▪▪▪▪▪▪▪▪▪▪▪▪▪▪▪▪▪▪▪	▪▪▪▪▪▪▪▪▪▪▪ ▪▪▪▪▪▪▪▪▪▪▪▪▪▪▪▪▪▪▪▪▪▪▪▪▪▪▪▪▪▪▪▪▪▪▪▪▪▪▪▪▪▪▪▪▪▪▪▪▪▪▪▪▪▪▪▪▪▪▪▪▪▪▪▪▪▪▪▪▪▪▪▪▪▪▪▪▪▪▪▪▪▪▪▪▪▪▪▪	▪▪▪▪▪▪▪▪▪▪▪▪▪▪▪▪▪▪▪▪▪▪▪▪▪▪▪▪▪▪ ▪▪▪▪▪▪▪▪▪▪▪▪▪▪▪▪▪▪▪▪▪▪▪▪▪▪▪▪▪▪ ▪▪▪▪▪▪▪▪▪▪▪▪▪▪▪▪▪▪▪▪▪▪▪▪▪▪▪▪▪▪▪▪▪▪▪▪▪▪▪▪▪▪▪▪▪▪▪▪▪▪▪▪▪▪▪▪▪▪▪▪▪▪▪▪▪▪▪▪▪▪▪▪▪▪▪▪▪▪▪▪▪▪▪▪▪▪▪▪	▪▪▪▪▪▪▪▪▪▪▪▪▪▪▪▪▪▪▪▪▪▪ ▪▪▪▪▪▪▪▪▪▪▪▪▪▪▪▪▪▪▪▪▪▪	▪▪▪▪▪▪▪▪▪▪▪▪▪▪▪▪▪▪▪▪▪▪▪▪▪▪▪▪▪▪▪▪▪▪▪▪▪▪▪▪▪▪▪▪▪▪▪▪▪
▪▪▪▪▪▪▪▪▪▪▪▪▪▪▪▪▪▪▪▪▪▪	▪▪▪▪▪▪▪▪▪▪▪ ▪▪▪▪▪▪▪▪▪▪▪▪▪▪▪▪▪▪▪▪▪▪▪▪▪▪▪▪▪▪▪▪▪▪▪▪▪▪▪▪▪▪▪▪▪▪▪▪▪▪▪▪▪▪▪▪▪▪▪▪▪▪▪▪▪▪▪▪▪▪▪▪▪▪▪▪▪▪▪▪▪▪▪▪▪▪▪▪	▪▪▪▪▪▪▪▪▪▪▪▪▪▪▪▪▪▪▪▪▪▪▪▪▪▪▪▪▪▪ ▪▪▪▪▪▪▪▪▪▪▪▪▪▪▪▪▪▪▪▪▪▪▪▪▪▪▪▪▪▪ ▪▪▪▪▪▪▪▪▪▪▪▪▪▪▪▪▪▪▪▪▪▪▪▪▪▪▪▪▪▪▪▪▪▪▪▪▪▪▪▪▪▪▪▪▪▪▪▪▪▪▪▪▪▪▪▪▪▪▪▪▪▪▪▪▪▪▪▪▪▪▪▪▪▪▪▪▪▪▪▪▪▪▪▪▪▪▪▪	▪▪▪▪▪▪▪▪▪▪▪▪▪▪▪▪▪▪▪▪▪▪ ▪▪▪▪▪▪▪▪▪▪▪▪▪▪▪▪▪▪▪▪▪▪	▪▪▪▪▪▪▪▪▪▪▪▪▪▪▪▪▪▪▪▪▪▪▪▪▪▪▪▪▪▪▪▪▪▪▪▪▪▪▪▪▪▪▪▪▪▪▪▪▪
▪▪▪▪▪▪▪▪▪▪▪▪▪▪▪▪▪▪▪▪▪▪	▪▪▪▪▪▪▪▪▪▪▪ ▪▪▪▪▪▪▪▪▪▪▪▪▪▪▪▪▪▪▪▪▪▪▪▪▪▪▪▪▪▪▪▪▪▪▪▪▪▪▪▪▪▪▪▪▪▪▪▪▪▪▪▪▪▪▪▪▪▪▪▪▪▪▪▪▪▪▪▪▪▪▪▪▪▪▪▪▪▪▪▪▪▪▪▪▪▪▪▪	▪▪▪▪▪▪▪▪▪▪▪▪▪▪▪▪▪▪▪▪▪▪▪▪▪▪▪▪▪▪ ▪▪▪▪▪▪▪▪▪▪▪▪▪▪▪▪▪▪▪▪▪▪▪▪▪▪▪▪▪▪ ▪▪▪▪▪▪▪▪▪▪▪▪▪▪▪▪▪▪▪▪▪▪▪▪▪▪▪▪▪▪▪▪▪▪▪▪▪▪▪▪▪▪▪▪▪▪▪▪▪▪▪▪▪▪▪▪▪▪▪▪▪▪▪▪▪▪▪▪▪▪▪▪▪▪▪▪▪▪▪▪▪▪▪▪▪▪▪▪	▪▪▪▪▪▪▪▪▪▪▪▪▪▪▪▪▪▪▪▪▪▪ ▪▪▪▪▪▪▪▪▪▪▪▪▪▪▪▪▪▪▪▪▪▪	▪▪▪▪▪▪▪▪▪▪▪▪▪▪▪▪▪▪▪▪▪▪▪▪▪▪▪▪▪▪▪▪▪▪▪▪▪▪▪▪▪▪▪▪▪▪▪▪▪
▪▪▪▪▪▪▪▪▪▪▪▪▪▪▪▪▪▪▪▪▪▪	▪▪▪▪▪▪▪▪▪▪▪ ▪▪▪▪▪▪▪▪▪▪▪▪▪▪▪▪▪▪▪▪▪▪▪▪▪▪▪▪▪▪▪▪▪▪▪▪▪▪▪▪▪▪▪▪▪▪▪▪▪▪▪▪▪▪▪▪▪▪▪▪▪▪▪▪▪▪▪▪▪▪▪▪▪▪▪▪▪▪▪▪▪▪▪▪▪▪▪▪	▪▪▪▪▪▪▪▪▪▪▪▪▪▪▪▪▪▪▪▪▪▪▪▪▪▪▪▪▪▪ ▪▪▪▪▪▪▪▪▪▪▪▪▪▪▪▪▪▪▪▪▪▪▪▪▪▪▪▪▪▪ ▪▪▪▪▪▪▪▪▪▪▪▪▪▪▪▪▪▪▪▪▪▪▪▪▪▪▪▪▪▪▪▪▪▪▪▪▪▪▪▪▪▪▪▪▪▪▪▪▪▪▪▪▪▪▪▪▪▪▪▪▪▪▪▪▪▪▪▪▪▪▪▪▪▪▪▪▪▪▪▪▪▪▪▪▪▪▪▪	▪▪▪▪▪▪▪▪▪▪▪▪▪▪▪▪▪▪▪▪▪▪ ▪▪▪▪▪▪▪▪▪▪▪▪▪▪▪▪▪▪▪▪▪▪	▪▪▪▪▪▪▪▪▪▪▪▪▪▪▪▪▪▪▪▪▪▪▪▪▪▪▪▪▪▪▪▪▪▪▪▪▪▪▪▪▪▪▪▪▪▪▪▪▪
▪▪▪▪▪▪▪▪▪▪▪▪▪▪▪▪▪▪▪▪▪▪	▪▪▪▪▪▪▪▪▪▪▪ ▪▪▪▪▪▪▪▪▪▪▪▪▪▪▪▪▪▪▪▪▪▪▪▪▪▪▪▪▪▪▪▪▪▪▪▪▪▪▪▪▪▪▪▪▪▪▪▪▪▪▪▪▪▪▪▪▪▪▪▪▪▪▪▪▪▪▪▪▪▪▪▪▪▪▪▪▪▪▪▪▪▪▪▪▪▪▪▪	▪▪▪▪▪▪▪▪▪▪▪▪▪▪▪▪▪▪▪▪▪▪▪▪▪▪▪▪▪▪ ▪▪▪▪▪▪▪▪▪▪▪▪▪▪▪▪▪▪▪▪▪▪▪▪▪▪▪▪▪▪ ▪▪▪▪▪▪▪▪▪▪▪▪▪▪▪▪▪▪▪▪▪▪▪▪▪▪▪▪▪▪▪▪▪▪▪▪▪▪▪▪▪▪▪▪▪▪▪▪▪▪▪▪▪▪▪▪▪▪▪▪▪▪▪▪▪▪▪▪▪▪▪▪▪▪▪▪▪▪▪▪▪▪▪▪▪▪▪▪	▪▪▪▪▪▪▪▪▪▪▪▪▪▪▪▪▪▪▪▪▪▪ ▪▪▪▪▪▪▪▪▪▪▪▪▪▪▪▪▪▪▪▪▪▪	▪▪▪▪▪▪▪▪▪▪▪▪▪▪▪▪▪▪▪▪▪▪▪▪▪▪▪▪▪▪▪▪▪▪▪▪▪▪▪▪▪▪▪▪▪▪▪▪▪
▪▪▪▪▪▪▪▪▪▪▪▪▪▪▪▪▪▪▪▪▪▪	▪▪▪▪▪▪▪▪▪▪▪ ▪▪▪▪▪▪▪▪▪▪▪▪▪▪▪▪▪▪▪▪▪▪▪▪▪▪▪▪▪▪▪▪▪▪▪▪▪▪▪▪▪▪▪▪▪▪▪▪▪▪▪▪▪▪▪▪▪▪▪▪▪▪▪▪▪▪▪▪▪▪▪▪▪▪▪▪▪▪▪▪▪▪▪▪▪▪▪▪	▪▪▪▪▪▪▪▪▪▪▪▪▪▪▪▪▪▪▪▪▪▪▪▪▪▪▪▪▪▪ ▪▪▪▪▪▪▪▪▪▪▪▪▪▪▪▪▪▪▪▪▪▪▪▪▪▪▪▪▪▪ ▪▪▪▪▪▪▪▪▪▪▪▪▪▪▪▪▪▪▪▪▪▪▪▪▪▪▪▪▪▪▪▪▪▪▪▪▪▪▪▪▪▪▪▪▪▪▪▪▪▪▪▪▪▪▪▪▪▪▪▪▪▪▪▪▪▪▪▪▪▪▪▪▪▪▪▪▪▪▪▪▪▪▪▪▪▪▪▪	▪▪▪▪▪▪▪▪▪▪▪▪▪▪▪▪▪▪▪▪▪▪ ▪▪▪▪▪▪▪▪▪▪▪▪▪▪▪▪▪▪▪▪▪▪	▪▪▪▪▪▪▪▪▪▪▪▪▪▪▪▪▪▪▪▪▪▪▪▪▪▪▪▪▪▪▪▪▪▪▪▪▪▪▪▪▪▪▪▪▪▪▪▪▪
▪▪▪▪▪▪▪▪▪▪▪▪▪▪▪▪▪▪▪▪▪▪	▪▪▪▪▪▪▪▪▪▪▪ ▪▪▪▪▪▪▪▪▪▪▪▪▪▪▪▪▪▪▪▪▪▪▪▪▪▪▪▪▪▪▪▪▪▪▪▪▪▪▪▪▪▪▪▪▪▪▪▪▪▪▪▪▪▪▪▪▪▪▪▪▪▪▪▪▪▪▪▪▪▪▪▪▪▪▪▪▪▪▪▪▪▪▪▪▪▪▪▪	▪▪▪▪▪▪▪▪▪▪▪▪▪▪▪▪▪▪▪▪▪▪▪▪▪▪▪▪▪▪ ▪▪▪▪▪▪▪▪▪▪▪▪▪▪▪▪▪▪▪▪▪▪▪▪▪▪▪▪▪▪ ▪▪▪▪▪▪▪▪▪▪▪▪▪▪▪▪▪▪▪▪▪▪▪▪▪▪▪▪▪▪▪▪▪▪▪▪▪▪▪▪▪▪▪▪▪▪▪▪▪▪▪▪▪▪▪▪▪▪▪▪▪▪▪▪▪▪▪▪▪▪▪▪▪▪▪▪▪▪▪▪▪▪▪▪▪▪▪▪	▪▪▪▪▪▪▪▪▪▪▪▪▪▪▪▪▪▪▪▪▪▪ ▪▪▪▪▪▪▪▪▪▪▪▪▪▪▪▪▪▪▪▪▪▪	▪▪▪▪▪▪▪▪▪▪▪▪▪▪▪▪▪▪▪▪▪▪▪▪▪▪▪▪▪▪▪▪▪▪▪▪▪▪▪▪▪▪▪▪▪▪▪▪▪
▪▪▪▪▪▪▪▪▪▪▪▪▪▪▪▪▪▪▪▪▪▪	▪▪▪▪▪▪▪▪▪▪▪ ▪▪▪▪▪▪▪▪▪▪▪▪▪▪▪▪▪▪▪▪▪▪▪▪▪▪▪▪▪▪▪▪▪▪▪▪▪▪▪▪▪▪▪▪▪▪▪▪▪▪▪▪▪▪▪▪▪▪▪▪▪▪▪▪▪▪▪▪▪▪▪▪▪▪▪▪▪▪▪▪▪▪▪▪▪▪▪▪	▪▪▪▪▪▪▪▪▪▪▪▪▪▪▪▪▪▪▪▪▪▪▪▪▪▪▪▪▪▪ ▪▪▪▪▪▪▪▪▪▪▪▪▪▪▪▪▪▪▪▪▪▪▪▪▪▪▪▪▪▪ ▪▪▪▪▪▪▪▪▪▪▪▪▪▪▪▪▪▪▪▪▪▪▪▪▪▪▪▪▪▪▪▪▪▪▪▪▪▪▪▪▪▪▪▪▪▪▪▪▪▪▪▪▪▪▪▪▪▪▪▪▪▪▪▪▪▪▪▪▪▪▪▪▪▪▪▪▪▪▪▪▪▪▪▪▪▪▪▪	▪▪▪▪▪▪▪▪▪▪▪▪▪▪▪▪▪▪▪▪▪▪ ▪▪▪▪▪▪▪▪▪▪▪▪▪▪▪▪▪▪▪▪▪▪	▪▪▪▪▪▪▪▪▪▪▪▪▪▪▪▪▪▪▪▪▪▪▪▪▪▪▪▪▪▪▪▪▪▪▪▪▪▪▪▪▪▪▪▪▪▪▪▪▪
▪▪▪▪▪▪▪▪▪▪▪▪▪▪▪▪▪▪▪▪▪▪	▪▪▪▪▪▪▪▪▪▪▪ ▪▪▪▪▪▪▪▪▪▪▪▪▪▪▪▪▪▪▪▪▪▪▪▪▪▪▪▪▪▪▪▪▪▪▪▪▪▪▪▪▪▪▪▪▪▪▪▪▪▪▪▪▪▪▪▪▪▪▪▪▪▪▪▪▪▪▪▪▪▪▪▪▪▪▪▪▪▪▪▪▪▪▪▪▪▪▪▪	▪▪▪▪▪▪▪▪▪▪▪▪▪▪▪▪▪▪▪▪▪▪▪▪▪▪▪▪▪▪ ▪▪▪▪▪▪▪▪▪▪▪▪▪▪▪▪▪▪▪▪▪▪▪▪▪▪▪▪▪▪ ▪▪▪▪▪▪▪▪▪▪▪▪▪▪▪▪▪▪▪▪▪▪▪▪▪▪▪▪▪▪▪▪▪▪▪▪▪▪▪▪▪▪▪▪▪▪▪▪▪▪▪▪▪▪▪▪▪▪▪▪▪▪▪▪▪▪▪▪▪▪▪▪▪▪▪▪▪▪▪▪▪▪▪▪▪▪▪▪	▪▪▪▪▪▪▪▪▪▪▪▪▪▪▪▪▪▪▪▪▪▪ ▪▪▪▪▪▪▪▪▪▪▪▪▪▪▪▪▪▪▪▪▪▪	▪▪▪▪▪▪▪▪▪▪▪▪▪▪▪▪▪▪▪▪▪▪▪▪▪▪▪▪▪▪▪▪▪▪▪▪▪▪▪▪▪▪▪▪▪▪▪▪▪
▪▪▪▪▪▪▪▪▪▪▪▪▪▪▪▪▪▪▪▪▪▪	▪▪▪▪▪▪▪▪▪▪▪ ▪▪▪▪▪▪▪▪▪▪▪▪▪▪▪▪▪▪▪▪▪▪▪▪▪▪▪▪▪▪▪▪▪▪▪▪▪▪▪▪▪▪▪▪▪▪▪▪▪▪▪▪▪▪▪▪▪▪▪▪▪▪▪▪▪▪▪▪▪▪▪▪▪▪▪▪▪▪▪▪▪▪▪▪▪▪▪▪	▪▪▪▪▪▪▪▪▪▪▪▪▪▪▪▪▪▪▪▪▪▪▪▪▪▪▪▪▪▪ ▪▪▪▪▪▪▪▪▪▪▪▪▪▪▪▪▪▪▪▪▪▪▪▪▪▪▪▪▪▪ ▪▪▪▪▪▪▪▪▪▪▪▪▪▪▪▪▪▪▪▪▪▪▪▪▪▪▪▪▪▪▪▪▪▪▪▪▪▪▪▪▪▪▪▪▪▪▪▪▪▪▪▪▪▪▪▪▪▪▪▪▪▪▪▪▪▪▪▪▪▪▪▪▪▪▪▪▪▪▪▪▪▪▪▪▪▪▪▪	▪▪▪▪▪▪▪▪▪▪▪▪▪▪▪▪▪▪▪▪▪▪ ▪▪▪▪▪▪▪▪▪▪▪▪▪▪▪▪▪▪▪▪▪▪	▪▪▪▪▪▪▪▪▪▪▪▪▪▪▪▪▪▪▪▪▪▪▪▪▪▪▪▪▪▪▪▪▪▪▪▪▪▪▪▪▪▪▪▪▪▪▪▪▪
▪▪▪▪▪▪▪▪▪▪▪▪▪▪▪▪▪▪▪▪▪▪	▪▪▪▪▪▪▪▪▪▪▪ ▪▪▪▪▪▪▪▪▪▪▪▪▪▪▪▪▪▪▪▪▪▪▪▪▪▪▪▪▪▪▪▪▪▪▪▪▪▪▪▪▪▪▪▪▪▪▪▪▪▪▪▪▪▪▪▪▪▪▪▪▪▪▪▪▪▪▪▪▪▪▪▪▪▪▪▪▪▪▪▪▪▪▪▪▪▪▪▪	▪▪▪▪▪▪▪▪▪▪▪▪▪▪▪▪▪▪▪▪▪▪▪▪▪▪▪▪▪▪ ▪▪▪▪▪▪▪▪▪▪▪▪▪▪▪▪▪▪▪▪▪▪▪▪▪▪▪▪▪▪ ▪▪▪▪▪▪▪▪▪▪▪▪▪▪▪▪▪▪▪▪▪▪▪▪▪▪▪▪▪▪▪▪▪▪▪▪▪▪▪▪▪▪▪▪▪▪▪▪▪▪▪▪▪▪▪▪▪▪▪▪▪▪▪▪▪▪▪▪▪▪▪▪▪▪▪▪▪▪▪▪▪▪▪▪▪▪▪▪	▪▪▪▪▪▪▪▪▪▪▪▪▪▪▪▪▪▪▪▪▪▪ ▪▪▪▪▪▪▪▪▪▪▪▪▪▪▪▪▪▪▪▪▪▪	▪▪▪▪▪▪▪▪▪▪▪▪▪▪▪▪▪▪▪▪▪▪▪▪▪▪▪▪▪▪▪▪▪▪▪▪▪▪▪▪▪▪▪▪▪▪▪▪▪
▪▪▪▪▪▪▪▪▪▪▪▪▪▪▪▪▪▪▪▪▪▪	▪▪▪▪▪▪▪▪▪▪▪ ▪▪▪▪▪▪▪▪▪▪▪▪▪▪▪▪▪▪▪▪▪▪▪▪▪▪▪▪▪▪▪▪▪▪▪▪▪▪▪▪▪▪▪▪▪▪▪▪▪▪▪▪▪▪▪▪▪▪▪▪▪▪▪▪▪▪▪▪▪▪▪▪▪▪▪▪▪▪▪▪▪▪▪▪▪▪▪▪	▪▪▪▪▪▪▪▪▪▪▪▪▪▪▪▪▪▪▪▪▪▪▪▪▪▪▪▪▪▪ ▪▪▪▪▪▪▪▪▪▪▪▪▪▪▪▪▪▪▪▪▪▪▪▪▪▪▪▪▪▪ ▪▪▪▪▪▪▪▪▪▪▪▪▪▪▪▪▪▪▪▪▪▪▪▪▪▪▪▪▪▪▪▪▪▪▪▪▪▪▪▪▪▪▪▪▪▪▪▪▪▪▪▪▪▪▪▪▪▪▪▪▪▪▪▪▪▪▪▪▪▪▪▪▪▪▪▪▪▪▪▪▪▪▪▪▪▪▪▪	▪▪▪▪▪▪▪▪▪▪▪▪▪▪▪▪▪▪▪▪▪▪ ▪▪▪▪▪▪▪▪▪▪▪▪▪▪▪▪▪▪▪▪▪▪	▪▪▪▪▪▪▪▪▪▪▪▪▪▪▪▪▪▪▪▪▪▪▪▪▪▪▪▪▪▪▪▪▪▪▪▪▪▪▪▪▪▪▪▪▪▪▪▪▪
▪▪▪▪▪▪▪▪▪▪▪▪▪▪▪▪▪▪▪▪▪▪	▪▪▪▪▪▪▪▪▪▪▪ ▪▪▪▪▪▪▪▪▪▪▪▪▪▪▪▪▪▪▪▪▪▪▪▪▪▪▪▪▪▪▪▪▪▪▪▪▪▪▪▪▪▪▪▪▪▪▪▪▪▪▪▪▪▪▪▪▪▪▪▪▪▪▪▪▪▪▪▪▪▪▪▪▪▪▪▪▪▪▪▪▪▪▪▪▪▪▪▪	▪▪▪▪▪▪▪▪▪▪▪▪▪▪▪▪▪▪▪▪▪▪▪▪▪▪▪▪▪▪ ▪▪▪▪▪▪▪▪▪▪▪▪▪▪▪▪▪▪▪▪▪▪▪▪▪▪▪▪▪▪ ▪▪▪▪▪▪▪▪▪▪▪▪▪▪▪▪▪▪▪▪▪▪▪▪▪▪▪▪▪▪▪▪▪▪▪▪▪▪▪▪▪▪▪▪▪▪▪▪▪▪▪▪▪▪▪▪▪▪▪▪▪▪▪▪▪▪▪▪▪▪▪▪▪▪▪▪▪▪▪▪▪▪▪▪▪▪▪▪	▪▪▪▪▪▪▪▪▪▪▪▪▪▪▪▪▪▪▪▪▪▪ ▪▪▪▪▪▪▪▪▪▪▪▪▪▪▪▪▪▪▪▪▪▪	▪▪▪▪▪▪▪▪▪▪▪▪▪▪▪▪▪▪▪▪▪▪▪▪▪▪▪▪▪▪▪▪▪▪▪▪▪▪▪▪▪▪▪▪▪▪▪▪▪
▪▪▪▪▪▪▪▪▪▪▪▪▪▪▪▪▪▪▪▪▪▪	▪▪▪▪▪▪▪▪▪▪▪ ▪▪▪▪▪▪▪▪▪▪▪▪▪▪▪▪▪▪▪▪▪▪▪▪▪▪▪▪▪▪▪▪▪▪▪▪▪▪▪▪▪▪▪▪▪▪▪▪▪▪▪▪▪▪▪▪▪▪▪▪▪▪▪▪▪▪▪▪▪▪▪▪▪▪▪▪▪▪▪▪▪▪▪▪▪▪▪▪	▪▪▪▪▪▪▪▪▪▪▪▪▪▪▪▪▪▪▪▪▪▪▪▪▪▪▪▪▪▪ ▪▪▪▪▪▪▪▪▪▪▪▪▪▪▪▪▪▪▪▪▪▪▪▪▪▪▪▪▪▪ ▪▪▪▪▪▪▪▪▪▪▪▪▪▪▪▪▪▪▪▪▪▪▪▪▪▪▪▪▪▪▪▪▪▪▪▪▪▪▪▪▪▪▪▪▪▪▪▪▪▪▪▪▪▪▪▪▪▪▪▪▪▪▪▪▪▪▪▪▪▪▪▪▪▪▪▪▪▪▪▪▪▪▪▪▪▪▪▪	▪▪▪▪▪▪▪▪▪▪▪▪▪▪▪▪▪▪▪▪▪▪ ▪▪▪▪▪▪▪▪▪▪▪▪▪▪▪▪▪▪▪▪▪▪	▪▪▪▪▪▪▪▪▪▪▪▪▪▪▪▪▪▪▪▪▪▪▪▪▪▪▪▪▪▪▪▪▪▪▪▪▪▪▪▪▪▪▪▪▪▪▪▪▪
▪▪▪▪▪▪▪▪▪▪▪▪▪▪▪▪▪▪▪▪▪▪	▪▪▪▪▪▪▪▪▪▪▪ ▪▪▪▪▪▪▪▪▪▪▪▪▪▪▪▪▪▪▪▪▪▪▪▪▪▪▪▪▪▪▪▪▪▪▪▪▪▪▪▪▪▪▪▪▪▪▪▪▪▪▪▪▪▪▪▪▪▪▪▪▪▪▪▪▪▪▪▪▪▪▪▪▪▪▪▪▪▪▪▪▪▪▪▪▪▪▪▪	▪▪▪▪▪▪▪▪▪▪▪▪▪▪▪▪▪▪▪▪▪▪▪▪▪▪▪▪▪▪ ▪▪▪▪▪▪▪▪▪▪▪▪▪▪▪▪▪▪▪▪▪▪▪▪▪▪▪▪▪▪ ▪▪▪▪▪▪▪▪▪▪▪▪▪▪▪▪▪▪▪▪▪▪▪▪▪▪▪▪▪▪▪▪▪▪▪▪▪▪▪▪▪▪▪▪▪▪▪▪▪▪▪▪▪▪▪▪▪▪▪▪▪▪▪▪▪▪▪▪▪▪▪▪▪▪▪▪▪▪▪▪▪▪▪▪▪▪▪▪	▪▪▪▪▪▪▪▪▪▪▪▪▪▪▪▪▪▪▪▪▪▪ ▪▪▪▪▪▪▪▪▪▪▪▪▪▪▪▪▪▪▪▪▪▪	▪▪▪▪▪▪▪▪▪▪▪▪▪▪▪▪▪▪▪▪▪▪▪▪▪▪▪▪▪▪▪▪▪▪▪▪▪▪▪▪▪▪▪▪▪▪▪▪▪
▪▪▪▪▪▪▪▪▪▪▪▪▪▪▪▪▪▪▪▪▪▪	▪▪▪▪▪▪▪▪▪▪▪ ▪▪▪▪▪▪▪▪▪▪▪▪▪▪▪▪▪▪▪▪▪▪▪▪▪▪▪▪▪▪▪▪▪▪▪▪▪▪▪▪▪▪▪▪▪▪▪▪▪▪▪▪▪▪▪▪▪▪▪▪▪▪▪▪▪▪▪▪▪▪▪▪▪▪▪▪▪▪▪▪▪▪▪▪▪▪▪▪	▪▪▪▪▪▪▪▪▪▪▪▪▪▪▪▪▪▪▪▪▪▪▪▪▪▪▪▪▪▪ ▪▪▪▪▪▪▪▪▪▪▪▪▪▪▪▪▪▪▪▪▪▪▪▪▪▪▪▪▪▪ ▪▪▪▪▪▪▪▪▪▪▪▪▪▪▪▪▪▪▪▪▪▪▪▪▪▪▪▪▪▪▪▪▪▪▪▪▪▪▪▪▪▪▪▪▪▪▪▪▪▪▪▪▪▪▪▪▪▪▪▪▪▪▪▪▪▪▪▪▪▪▪▪▪▪▪▪▪▪▪▪▪▪▪▪▪▪▪▪	▪▪▪▪▪▪▪▪▪▪▪▪▪▪▪▪▪▪▪▪▪▪ ▪▪▪▪▪▪▪▪▪▪▪▪▪▪▪▪▪▪▪▪▪▪	▪▪▪▪▪▪▪▪▪▪▪▪▪▪▪▪▪▪▪▪▪▪▪▪▪▪▪▪▪▪▪▪▪▪▪▪▪▪▪▪▪▪▪▪▪▪▪▪▪
▪▪▪▪▪▪▪▪▪▪▪▪▪▪▪▪▪▪▪▪▪▪	▪▪▪▪▪▪▪▪▪▪▪ ▪▪▪▪▪▪▪▪▪▪▪▪▪▪▪▪▪▪▪▪▪▪▪▪▪▪▪▪▪▪▪▪▪▪▪▪▪▪▪▪▪▪▪▪▪▪▪▪▪▪▪▪▪▪▪▪▪▪▪▪▪▪▪▪▪▪▪▪▪▪▪▪▪▪▪▪▪▪▪▪▪▪▪▪▪▪▪▪	▪▪▪▪▪▪▪▪▪▪▪▪▪▪▪▪▪▪▪▪▪▪▪▪▪▪▪▪▪▪ ▪▪▪▪▪▪▪▪▪▪▪▪▪▪▪▪▪▪▪▪▪▪▪▪▪▪▪▪▪▪ ▪▪▪▪▪▪▪▪▪▪▪▪▪▪▪▪▪▪▪▪▪▪▪▪▪▪▪▪▪▪▪▪▪▪▪▪▪▪▪▪▪▪▪▪▪▪▪▪▪▪▪▪▪▪▪▪▪▪▪▪▪▪▪▪▪▪▪▪▪▪▪▪▪▪▪▪▪▪▪▪▪▪▪▪▪▪▪▪	▪▪▪▪▪▪▪▪▪▪▪▪▪▪▪▪▪▪▪▪▪▪ ▪▪▪▪▪▪▪▪▪▪▪▪▪▪▪▪▪▪▪▪▪▪	▪▪▪▪▪▪▪▪▪▪▪▪▪▪▪▪▪▪▪▪▪▪▪▪▪▪▪▪▪▪▪▪▪▪▪▪▪▪▪▪▪▪▪▪▪▪▪▪▪
▪▪▪▪▪▪▪▪▪▪▪▪▪▪▪▪▪▪▪▪▪▪	▪▪▪▪▪▪▪▪▪▪▪ ▪▪▪▪▪▪▪▪▪▪▪▪▪▪▪▪▪▪▪▪▪▪▪▪▪▪▪▪▪▪▪▪▪▪▪▪▪▪▪▪▪▪▪▪▪▪▪▪▪▪▪▪▪▪▪▪▪▪▪▪▪▪▪▪▪▪▪▪▪▪▪▪▪▪▪▪▪▪▪▪▪▪▪▪▪▪▪▪	▪▪▪▪▪▪▪▪▪▪▪▪▪▪▪▪▪▪▪▪▪▪▪▪▪▪▪▪▪▪ ▪▪▪▪▪▪▪▪▪▪▪▪▪▪▪▪▪▪▪▪▪▪▪▪▪▪▪▪▪▪ ▪▪▪▪▪▪▪▪▪▪▪▪▪▪▪▪▪▪▪▪▪▪▪▪▪▪▪▪▪▪▪▪▪▪▪▪▪▪▪▪▪▪▪▪▪▪▪▪▪▪▪▪▪▪▪▪▪▪▪▪▪▪▪▪▪▪▪▪▪▪▪▪▪▪▪▪▪▪▪▪▪▪▪▪▪▪▪▪	▪▪▪▪▪▪▪▪▪▪▪▪▪▪▪▪▪▪▪▪▪▪ ▪▪▪▪▪▪▪▪▪▪▪▪▪▪▪▪▪▪▪▪▪▪	▪▪▪▪▪▪▪▪▪▪▪▪▪▪▪▪▪▪▪▪▪▪▪▪▪▪▪▪▪▪▪▪▪▪▪▪▪▪▪▪▪▪▪▪▪▪▪▪▪
▪▪▪▪▪▪▪▪▪▪▪▪▪▪▪▪▪▪▪▪▪▪	▪▪▪▪▪▪▪▪▪▪▪ ▪▪▪▪▪▪▪▪▪▪▪▪▪▪▪▪▪▪▪▪▪▪▪▪▪▪▪▪▪▪▪▪▪▪▪▪▪▪▪▪▪▪▪▪▪▪▪▪▪▪▪▪▪▪▪▪▪▪▪▪▪▪▪▪▪▪▪▪▪▪▪▪▪▪▪▪▪▪▪▪▪▪▪▪▪▪▪▪	▪▪▪▪▪▪▪▪▪▪▪▪▪▪▪▪▪▪▪▪▪▪▪▪▪▪▪▪▪▪ ▪▪▪▪▪▪▪▪▪▪▪▪▪▪▪▪▪▪▪▪▪▪▪▪▪▪▪▪▪▪ ▪▪▪▪▪▪▪▪▪▪▪▪▪▪▪▪▪▪▪▪▪▪▪▪▪▪▪▪▪▪▪▪▪▪▪▪▪▪▪▪▪▪▪▪▪▪▪▪▪▪▪▪▪▪▪▪▪▪▪▪▪▪▪▪▪▪▪▪▪▪▪▪▪▪▪▪▪▪▪▪▪▪▪▪▪▪▪▪	▪▪▪▪▪▪▪▪▪▪▪▪▪▪▪▪▪▪▪▪▪▪ ▪▪▪▪▪▪▪▪▪▪▪▪▪▪▪▪▪▪▪▪▪▪	▪▪▪▪▪▪▪▪▪▪▪▪▪▪▪▪▪▪▪▪▪▪▪▪▪▪▪▪▪▪▪▪▪▪▪▪▪▪▪▪▪▪▪▪▪▪▪▪▪
▪▪▪▪▪▪▪▪▪▪▪▪▪▪▪▪▪▪▪▪▪▪	▪▪▪▪▪▪▪▪▪▪▪ ▪▪▪▪▪▪▪▪▪▪▪▪▪▪▪▪▪▪▪▪▪▪▪▪▪▪▪▪▪▪▪▪▪▪▪▪▪▪▪▪▪▪▪▪▪▪▪▪▪▪▪▪▪▪▪▪▪▪▪▪▪▪▪▪▪▪▪▪▪▪▪▪▪▪▪▪▪▪▪▪▪▪▪▪▪▪▪▪	▪▪▪▪▪▪▪▪▪▪▪▪▪▪▪▪▪▪▪▪▪▪▪▪▪▪▪▪▪▪ ▪▪▪▪▪▪▪▪▪▪▪▪▪▪▪▪▪▪▪▪▪▪▪▪▪▪▪▪▪▪ ▪▪▪▪▪▪▪▪▪▪▪▪▪▪▪▪▪▪▪▪▪▪▪▪▪▪▪▪▪▪▪▪▪▪▪▪▪▪▪▪▪▪▪▪▪▪▪▪▪▪▪▪▪▪▪▪▪▪▪▪▪▪▪▪▪▪▪▪▪▪▪▪▪▪▪▪▪▪▪▪▪▪▪▪▪▪▪▪	▪▪▪▪▪▪▪▪▪▪▪▪▪▪▪▪▪▪▪▪▪▪ ▪▪▪▪▪▪▪▪▪▪▪▪▪▪▪▪▪▪▪▪▪▪	▪▪▪▪▪▪▪▪▪▪▪▪▪▪▪▪▪▪▪▪▪▪▪▪▪▪▪▪▪▪▪▪▪▪▪▪▪▪▪▪▪▪▪▪▪▪▪▪▪
▪▪▪▪▪▪▪▪▪▪▪▪▪▪▪▪▪▪▪▪▪▪	▪▪▪▪▪▪▪▪▪▪▪ ▪▪▪▪▪▪▪▪▪▪▪▪▪▪▪▪▪▪▪▪▪▪▪▪▪▪▪▪▪▪▪▪▪▪▪▪▪▪▪▪▪▪▪▪▪▪▪▪▪▪▪▪▪▪▪▪▪▪▪▪▪▪▪▪▪▪▪▪▪▪▪▪▪▪▪▪▪▪▪▪▪▪▪▪▪▪▪▪	▪▪▪▪▪▪▪▪▪▪▪▪▪▪▪▪▪▪▪▪▪▪▪▪▪▪▪▪▪▪ ▪▪▪▪▪▪▪▪▪▪▪▪▪▪▪▪▪▪▪▪▪▪▪▪▪▪▪▪▪▪ ▪▪▪▪▪▪▪▪▪▪▪▪▪▪▪▪▪▪▪▪▪▪▪▪▪▪▪▪▪▪▪▪▪▪▪▪▪▪▪▪▪▪▪▪▪▪▪▪▪▪▪▪▪▪▪▪▪▪▪▪▪▪▪▪▪▪▪▪▪▪▪▪▪▪▪▪▪▪▪▪▪▪▪▪▪▪▪▪	▪▪▪▪▪▪▪▪▪▪▪▪▪▪▪▪▪▪▪▪▪▪ ▪▪▪▪▪▪▪▪▪▪▪▪▪▪▪▪▪▪▪▪▪▪	▪▪▪▪▪▪▪▪▪▪▪▪▪▪▪▪▪▪▪▪▪▪▪▪▪▪▪▪▪▪▪▪▪▪▪▪▪▪▪▪▪▪▪▪▪▪▪▪▪
▪▪▪▪▪▪▪▪▪▪▪▪▪▪▪▪▪▪▪▪▪▪	▪▪▪▪▪▪▪▪▪▪▪ ▪▪▪▪▪▪▪▪▪▪▪▪▪▪▪▪▪▪▪▪▪▪▪▪▪▪▪▪▪▪▪▪▪▪▪▪▪▪▪▪▪▪▪▪▪▪▪▪▪▪▪▪▪▪▪▪▪▪▪▪▪▪▪▪▪▪▪▪▪▪▪▪▪▪▪▪▪▪▪▪▪▪▪▪▪▪▪▪	▪▪▪▪▪▪▪▪▪▪▪▪▪▪▪▪▪▪▪▪▪▪▪▪▪▪▪▪▪▪ ▪▪▪▪▪▪▪▪▪▪▪▪▪▪▪▪▪▪▪▪▪▪▪▪▪▪▪▪▪▪ ▪▪▪▪▪▪▪▪▪▪▪▪▪▪▪▪▪▪▪▪▪▪▪▪▪▪▪▪▪▪▪▪▪▪▪▪▪▪▪▪▪▪▪▪▪▪▪▪▪▪▪▪▪▪▪▪▪▪▪▪▪▪▪▪▪▪▪▪▪▪▪▪▪▪▪▪▪▪▪▪▪▪▪▪▪▪▪▪	▪▪▪▪▪▪▪▪▪▪▪▪▪▪▪▪▪▪▪▪▪▪ ▪▪▪▪▪▪▪▪▪▪▪▪▪▪▪▪▪▪▪▪▪▪	▪▪▪▪▪▪▪▪▪▪▪▪▪▪▪▪▪▪▪▪▪▪▪▪▪▪▪▪▪▪▪▪▪▪▪▪▪▪▪▪▪▪▪▪▪▪▪▪▪
▪▪▪▪▪▪▪▪▪▪▪▪▪▪▪▪▪▪▪▪▪▪	▪▪▪▪▪▪▪▪▪▪▪ ▪▪▪▪▪▪▪▪▪▪▪▪▪▪▪▪▪▪▪▪▪▪▪▪▪▪▪▪▪▪▪▪▪▪▪▪▪▪▪▪▪▪▪▪▪▪▪▪▪▪▪▪▪▪▪▪▪▪▪▪▪▪▪▪▪▪▪▪▪▪▪▪▪▪▪▪▪▪▪▪▪▪▪▪▪▪▪▪	▪▪▪▪▪▪▪▪▪▪▪▪▪▪▪▪▪▪▪▪▪▪▪▪▪▪▪▪▪▪ ▪▪▪▪▪▪▪▪▪▪▪▪▪▪▪▪▪▪▪▪▪▪▪▪▪▪▪▪▪▪ ▪▪▪▪▪▪▪▪▪▪▪▪▪▪▪▪▪▪▪▪▪▪▪▪▪▪▪▪▪▪▪▪▪▪▪▪▪▪▪▪▪▪▪▪▪▪▪▪▪▪▪▪▪▪▪▪▪▪▪▪▪▪▪▪▪▪▪▪▪▪▪▪▪▪▪▪▪▪▪▪▪▪▪▪▪▪▪▪	▪▪▪▪▪▪▪▪▪▪▪▪▪▪▪▪▪▪▪▪▪▪ ▪▪▪▪▪▪▪▪▪▪▪▪▪▪▪▪▪▪▪▪▪▪	▪▪▪▪▪▪▪▪▪▪▪▪▪▪▪▪▪▪▪▪▪▪▪▪▪▪▪▪▪▪▪▪▪▪▪▪▪▪▪▪▪▪▪▪▪▪▪▪▪
▪▪▪▪▪▪▪▪▪▪▪▪▪▪▪▪▪▪▪▪▪▪	▪▪▪▪▪▪▪▪▪▪▪ ▪▪▪▪▪▪▪▪▪▪▪▪▪▪▪▪▪▪▪▪▪▪▪▪▪▪▪▪▪▪▪▪▪▪▪▪▪▪▪▪▪▪▪▪▪▪▪▪▪▪▪▪▪▪▪▪▪▪▪▪▪▪▪▪▪▪▪▪▪▪▪▪▪▪▪▪▪▪▪▪▪▪▪▪▪▪▪▪	▪▪▪▪▪▪▪▪▪▪▪▪▪▪▪▪▪▪▪▪▪▪▪▪▪▪▪▪▪▪ ▪▪▪▪▪▪▪▪▪▪▪▪▪▪▪▪▪▪▪▪▪▪▪▪▪▪▪▪▪▪ ▪▪▪▪▪▪▪▪▪▪▪▪▪▪▪▪▪▪▪▪▪▪▪▪▪▪▪▪▪▪▪▪▪▪▪▪▪▪▪▪▪▪▪▪▪▪▪▪▪▪▪▪▪▪▪▪▪▪▪▪▪▪▪▪▪▪▪▪▪▪▪▪▪▪▪▪▪▪▪▪▪▪▪▪▪▪▪▪	▪▪▪▪▪▪▪▪▪▪▪▪▪▪▪▪▪▪▪▪▪▪ ▪▪▪▪▪▪▪▪▪▪▪▪▪▪▪▪▪▪▪▪▪▪	▪▪▪▪▪▪▪▪▪▪▪▪▪▪▪▪▪▪▪▪▪▪▪▪▪▪▪▪▪▪▪▪▪▪▪▪▪▪▪▪▪▪▪▪▪▪▪▪▪
▪▪▪▪▪▪▪▪▪▪▪▪▪▪▪▪▪▪▪▪▪▪	▪▪▪▪▪▪▪▪▪▪▪ ▪▪▪▪▪▪▪▪▪▪▪▪▪▪▪▪▪▪▪▪▪▪▪▪▪▪▪▪▪▪▪▪▪▪▪▪▪▪▪▪▪▪▪▪▪▪▪▪▪▪▪▪▪▪▪▪▪▪▪▪▪▪▪▪▪▪▪▪▪▪▪▪▪▪▪▪▪▪▪▪▪▪▪▪▪▪▪▪	▪▪▪▪▪▪▪▪▪▪▪▪▪▪▪▪▪▪▪▪▪▪▪▪▪▪▪▪▪▪ ▪▪▪▪▪▪▪▪▪▪▪▪▪▪▪▪▪▪▪▪▪▪▪▪▪▪▪▪▪▪ ▪▪▪▪▪▪▪▪▪▪▪▪▪▪▪▪▪▪▪▪▪▪▪▪▪▪▪▪▪▪▪▪▪▪▪▪▪▪▪▪▪▪▪▪▪▪▪▪▪▪▪▪▪▪▪▪▪▪▪▪▪▪▪▪▪▪▪▪▪▪▪▪▪▪▪▪▪▪▪▪▪▪▪▪▪▪▪▪	▪▪▪▪▪▪▪▪▪▪▪▪▪▪▪▪▪▪▪▪▪▪ ▪▪▪▪▪▪▪▪▪▪▪▪▪▪▪▪▪▪▪▪▪▪	▪▪▪▪▪▪▪▪▪▪▪▪▪▪▪▪▪▪▪▪▪▪▪▪▪▪▪▪▪▪▪▪▪▪▪▪▪▪▪▪▪▪▪▪▪▪▪▪▪
▪▪▪▪▪▪▪▪▪▪▪▪▪▪▪▪▪▪▪▪▪▪	▪▪▪▪▪▪▪▪▪▪▪ ▪▪▪▪▪▪▪▪▪▪▪▪▪▪▪▪▪▪▪▪▪▪▪▪▪▪▪▪▪▪▪▪▪▪▪▪▪▪▪▪▪▪▪▪▪▪▪▪▪▪▪▪▪▪▪▪▪▪▪▪▪▪▪▪▪▪▪▪▪▪▪▪▪▪▪▪▪▪▪▪▪▪▪▪▪▪▪▪	▪▪▪▪▪▪▪▪▪▪▪▪▪▪▪▪▪▪▪▪▪▪▪▪▪▪▪▪▪▪ ▪▪▪▪▪▪▪▪▪▪▪▪▪▪▪▪▪▪▪▪▪▪▪▪▪▪▪▪▪▪ ▪▪▪▪▪▪▪▪▪▪▪▪▪▪▪▪▪▪▪▪▪▪▪▪▪▪▪▪▪▪▪▪▪▪▪▪▪▪▪▪▪▪▪▪▪▪▪▪▪▪▪▪▪▪▪▪▪▪▪▪▪▪▪▪▪▪▪▪▪▪▪▪▪▪▪▪▪▪▪▪▪▪▪▪▪▪▪▪	▪▪▪▪▪▪▪▪▪▪▪▪▪▪▪▪▪▪▪▪▪▪ ▪▪▪▪▪▪▪▪▪▪▪▪▪▪▪▪▪▪▪▪▪▪	▪▪▪▪▪▪▪▪▪▪▪▪▪▪▪▪▪▪▪▪▪▪▪▪▪▪▪▪▪▪▪▪▪▪▪▪▪▪▪▪▪▪▪▪▪▪▪▪▪
▪▪▪▪▪▪▪▪▪▪▪▪▪▪▪▪▪▪▪▪▪▪	▪▪▪▪▪▪▪▪▪▪▪ ▪▪▪▪▪▪▪▪▪▪▪▪▪▪▪▪▪▪▪▪▪▪▪▪▪▪▪▪▪▪▪▪▪▪▪▪▪▪▪▪▪▪▪▪▪▪▪▪▪▪▪▪▪▪▪▪▪▪▪▪▪▪▪▪▪▪▪▪▪▪▪▪▪▪▪▪▪▪▪▪▪▪▪▪▪▪▪▪	▪▪▪▪▪▪▪▪▪▪▪▪▪▪▪▪▪▪▪▪▪▪▪▪▪▪▪▪▪▪ ▪▪▪▪▪▪▪▪▪▪▪▪▪▪▪▪▪▪▪▪▪▪▪▪▪▪▪▪▪▪ ▪▪▪▪▪▪▪▪▪▪▪▪▪▪▪▪▪▪▪▪▪▪▪▪▪▪▪▪▪▪▪▪▪▪▪▪▪▪▪▪▪▪▪▪▪▪▪▪▪▪▪▪▪▪▪▪▪▪▪▪▪▪▪▪▪▪▪▪▪▪▪▪▪▪▪▪▪▪▪▪▪▪▪▪▪▪▪▪	▪▪▪▪▪▪▪▪▪▪▪▪▪▪▪▪▪▪▪▪▪▪ ▪▪▪▪▪▪▪▪▪▪▪▪▪▪▪▪▪▪▪▪▪▪	▪▪▪▪▪▪▪▪▪▪▪▪▪▪▪▪▪▪▪▪▪▪▪▪▪▪▪▪▪▪▪▪▪▪▪▪▪▪▪▪▪▪▪▪▪▪▪▪▪
▪▪▪▪▪▪▪▪▪▪▪▪▪▪▪▪▪▪▪▪▪▪	▪▪▪▪▪▪▪▪▪▪▪ ▪▪▪▪▪▪▪▪▪▪▪▪▪▪▪▪▪▪▪▪▪▪▪▪▪▪▪▪▪▪▪▪▪▪▪▪▪▪▪▪▪▪▪▪▪▪▪▪▪▪▪▪▪▪▪▪▪▪▪▪▪▪▪▪▪▪▪▪▪▪▪▪▪▪▪▪▪▪▪▪▪▪▪▪▪▪▪▪	▪▪▪▪▪▪▪▪▪▪▪▪▪▪▪▪▪▪▪▪▪▪▪▪▪▪▪▪▪▪ ▪▪▪▪▪▪▪▪▪▪▪▪▪▪▪▪▪▪▪▪▪▪▪▪▪▪▪▪▪▪ ▪▪▪▪▪▪▪▪▪▪▪▪▪▪▪▪▪▪▪▪▪▪▪▪▪▪▪▪▪▪▪▪▪▪▪▪▪▪▪▪▪▪▪▪▪▪▪▪▪▪▪▪▪▪▪▪▪▪▪▪▪▪▪▪▪▪▪▪▪▪▪▪▪▪▪▪▪▪▪▪▪▪▪▪▪▪▪▪	▪▪▪▪▪▪▪▪▪▪▪▪▪▪▪▪▪▪▪▪▪▪ ▪▪▪▪▪▪▪▪▪▪▪▪▪▪▪▪▪▪▪▪▪▪	▪▪▪▪▪▪▪▪▪▪▪▪▪▪▪▪▪▪▪▪▪▪▪▪▪▪▪▪▪▪▪▪▪▪▪▪▪▪▪▪▪▪▪▪▪▪▪▪▪
▪▪▪▪▪▪▪▪▪▪▪▪▪▪▪▪▪▪▪▪▪▪	▪▪▪▪▪▪▪▪▪▪▪ ▪▪▪▪▪▪▪▪▪▪▪▪▪▪▪▪▪▪▪▪▪▪▪▪▪▪▪▪▪▪▪▪▪▪▪▪▪▪▪▪▪▪▪▪▪▪▪▪▪▪▪▪▪▪▪▪▪▪▪▪▪▪▪▪▪▪▪▪▪▪▪▪▪▪▪▪▪▪▪▪▪▪▪▪▪▪▪▪	▪▪▪▪▪▪▪▪▪▪▪▪▪▪▪▪▪▪▪▪▪▪▪▪▪▪▪▪▪▪ ▪▪▪▪▪▪▪▪▪▪▪▪▪▪▪▪▪▪▪▪▪▪▪▪▪▪▪▪▪▪ ▪▪▪▪▪▪▪▪▪▪▪▪▪▪▪▪▪▪▪▪▪▪▪▪▪▪▪▪▪▪▪▪▪▪▪▪▪▪▪▪▪▪▪▪▪▪▪▪▪▪▪▪▪▪▪▪▪▪▪▪▪▪▪▪▪▪▪▪▪▪▪▪▪▪▪▪▪▪▪▪▪▪▪▪▪▪▪▪	▪▪▪▪▪▪▪▪▪▪▪▪▪▪▪▪▪▪▪▪▪▪ ▪▪▪▪▪▪▪▪▪▪▪▪▪▪▪▪▪▪▪▪▪▪	▪▪▪▪▪▪▪▪▪▪▪▪▪▪▪▪▪▪▪▪▪▪▪▪▪▪▪▪▪▪▪▪▪▪▪▪▪▪▪▪▪▪▪▪▪▪▪▪▪
▪▪▪▪▪▪▪▪▪▪▪▪▪▪▪▪▪▪▪▪▪▪	▪▪▪▪▪▪▪▪▪▪▪ ▪▪▪▪▪▪▪▪▪▪▪▪▪▪▪▪▪▪▪▪▪▪▪▪▪▪▪▪▪▪▪▪▪▪▪▪▪▪▪▪▪▪▪▪▪▪▪▪▪▪▪▪▪▪▪▪▪▪▪▪▪▪▪▪▪▪▪▪▪▪▪▪▪▪▪▪▪▪▪▪▪▪▪▪▪▪▪▪	▪▪▪▪▪▪▪▪▪▪▪▪▪▪▪▪▪▪▪▪▪▪▪▪▪▪▪▪▪▪ ▪▪▪▪▪▪▪▪▪▪▪▪▪▪▪▪▪▪▪▪▪▪▪▪▪▪▪▪▪▪ ▪▪▪▪▪▪▪▪▪▪▪▪▪▪▪▪▪▪▪▪▪▪▪▪▪▪▪▪▪▪▪▪▪▪▪▪▪▪▪▪▪▪▪▪▪▪▪▪▪▪▪▪▪▪▪▪▪▪▪▪▪▪▪▪▪▪▪▪▪▪▪▪▪▪▪▪▪▪▪▪▪▪▪▪▪▪▪▪	▪▪▪▪▪▪▪▪▪▪▪▪▪▪▪▪▪▪▪▪▪▪ ▪▪▪▪▪▪▪▪▪▪▪▪▪▪▪▪▪▪▪▪▪▪	▪▪▪▪▪▪▪▪▪▪▪▪▪▪▪▪▪▪▪▪▪▪▪▪▪▪▪▪▪▪▪▪▪▪▪▪▪▪▪▪▪▪▪▪▪▪▪▪▪
▪▪▪▪▪▪▪▪▪▪▪▪▪▪▪▪▪▪▪▪▪▪	▪▪▪▪▪▪▪▪▪▪▪ ▪▪▪▪▪▪▪▪▪▪▪▪▪▪▪▪▪▪▪▪▪▪▪▪▪▪▪▪▪▪▪▪▪▪▪▪▪▪▪▪▪▪▪▪▪▪▪▪▪▪▪▪▪▪▪▪▪▪▪▪▪▪▪▪▪▪▪▪▪▪▪▪▪▪▪▪▪▪▪▪▪▪▪▪▪▪▪▪	▪▪▪▪▪▪▪▪▪▪▪▪▪▪▪▪▪▪▪▪▪▪▪▪▪▪▪▪▪▪ ▪▪▪▪▪▪▪▪▪▪▪▪▪▪▪▪▪▪▪▪▪▪▪▪▪▪▪▪▪▪ ▪▪▪▪▪▪▪▪▪▪▪▪▪▪▪▪▪▪▪▪▪▪▪▪▪▪▪▪▪▪▪▪▪▪▪▪▪▪▪▪▪▪▪▪▪▪▪▪▪▪▪▪▪▪▪▪▪▪▪▪▪▪▪▪▪▪▪▪▪▪▪▪▪▪▪▪▪▪▪▪▪▪▪▪▪▪▪▪	▪▪▪▪▪▪▪▪▪▪▪▪▪▪▪▪▪▪▪▪▪▪ ▪▪▪▪▪▪▪▪▪▪▪▪▪▪▪▪▪▪▪▪▪▪	▪▪▪▪▪▪▪▪▪▪▪▪▪▪▪▪▪▪▪▪▪▪▪▪▪▪▪▪▪▪▪▪▪▪▪▪▪▪▪▪▪▪▪▪▪▪▪▪▪
▪▪▪▪▪▪▪▪▪▪▪▪▪▪▪▪▪▪▪▪▪▪	▪▪▪▪▪▪▪▪▪▪▪ ▪▪▪▪▪▪▪▪▪▪▪▪▪▪▪▪▪▪▪▪▪▪▪▪▪▪▪▪▪▪▪▪▪▪▪▪▪▪▪▪▪▪▪▪▪▪▪▪▪▪▪▪▪▪▪▪▪▪▪▪▪▪▪▪▪▪▪▪▪▪▪▪▪▪▪▪▪▪▪▪▪▪▪▪▪▪▪▪	▪▪▪▪▪▪▪▪▪▪▪▪▪▪▪▪▪▪▪▪▪▪▪▪▪▪▪▪▪▪ ▪▪▪▪▪▪▪▪▪▪▪▪▪▪▪▪▪▪▪▪▪▪▪▪▪▪▪▪▪▪ ▪▪▪▪▪▪▪▪▪▪▪▪▪▪▪▪▪▪▪▪▪▪▪▪▪▪▪▪▪▪▪▪▪▪▪▪▪▪▪▪▪▪▪▪▪▪▪▪▪▪▪▪▪▪▪▪▪▪▪▪▪▪▪▪▪▪▪▪▪▪▪▪▪▪▪▪▪▪▪▪▪▪▪▪▪▪▪▪	▪▪▪▪▪▪▪▪▪▪▪▪▪▪▪▪▪▪▪▪▪▪ ▪▪▪▪▪▪▪▪▪▪▪▪▪▪▪▪▪▪▪▪▪▪	▪▪▪▪▪▪▪▪▪▪▪▪▪▪▪▪▪▪▪▪▪▪▪▪▪▪▪▪▪▪▪▪▪▪▪▪▪▪▪▪▪▪▪▪▪▪▪▪▪
▪▪▪▪▪▪▪▪▪▪▪▪▪▪▪▪▪▪▪▪▪▪	▪▪▪▪▪▪▪▪▪▪▪ ▪▪▪▪▪▪▪▪▪▪▪▪▪▪▪▪▪▪▪▪▪▪▪▪▪▪▪▪▪▪▪▪▪▪▪▪▪▪▪▪▪▪▪▪▪▪▪▪▪▪▪▪▪▪▪▪▪▪▪▪▪▪▪▪▪▪▪▪▪▪▪▪▪▪▪▪▪▪▪▪▪▪▪▪▪▪▪▪	▪▪▪▪▪▪▪▪▪▪▪▪▪▪▪▪▪▪▪▪▪▪▪▪▪▪▪▪▪▪ ▪▪▪▪▪▪▪▪▪▪▪▪▪▪▪▪▪▪▪▪▪▪▪▪▪▪▪▪▪▪ ▪▪▪▪▪▪▪▪▪▪▪▪▪▪▪▪▪▪▪▪▪▪▪▪▪▪▪▪▪▪▪▪▪▪▪▪▪▪▪▪▪▪▪▪▪▪▪▪▪▪▪▪▪▪▪▪▪▪▪▪▪▪▪▪▪▪▪▪▪▪▪▪▪▪▪▪▪▪▪▪▪▪▪▪▪▪▪▪	▪▪▪▪▪▪▪▪▪▪▪▪▪▪▪▪▪▪▪▪▪▪ ▪▪▪▪▪▪▪▪▪▪▪▪▪▪▪▪▪▪▪▪▪▪	▪▪▪▪▪▪▪▪▪▪▪▪▪▪▪▪▪▪▪▪▪▪▪▪▪▪▪▪▪▪▪▪▪▪▪▪▪▪▪▪▪▪▪▪▪▪▪▪▪
▪▪▪▪▪▪▪▪▪▪▪▪▪▪▪▪▪▪▪▪▪▪	▪▪▪▪▪▪▪▪▪▪▪ ▪▪▪▪▪▪▪▪▪▪▪▪▪▪▪▪▪▪▪▪▪▪▪▪▪▪▪▪▪▪▪▪▪▪▪▪▪▪▪▪▪▪▪▪▪▪▪▪▪▪▪▪▪▪▪▪▪▪▪▪▪▪▪▪▪▪▪▪▪▪▪▪▪▪▪▪▪▪▪▪▪▪▪▪▪▪▪▪	▪▪▪▪▪▪▪▪▪▪▪▪▪▪▪▪▪▪▪▪▪▪▪▪▪▪▪▪▪▪ ▪▪▪▪▪▪▪▪▪▪▪▪▪▪▪▪▪▪▪▪▪▪▪▪▪▪▪▪▪▪ ▪▪▪▪▪▪▪▪▪▪▪▪▪▪▪▪▪▪▪▪▪▪▪▪▪▪▪▪▪▪▪▪▪▪▪▪▪▪▪▪▪▪▪▪▪▪▪▪▪▪▪▪▪▪▪▪▪▪▪▪▪▪▪▪▪▪▪▪▪▪▪▪▪▪▪▪▪▪▪▪▪▪▪▪▪▪▪▪	▪▪▪▪▪▪▪▪▪▪▪▪▪▪▪▪▪▪▪▪▪▪ ▪▪▪▪▪▪▪▪▪▪▪▪▪▪▪▪▪▪▪▪▪▪	▪▪▪▪▪▪▪▪▪▪▪▪▪▪▪▪▪▪▪▪▪▪▪▪▪▪▪▪▪▪▪▪▪▪▪▪▪▪▪▪▪▪▪▪▪▪▪▪▪
▪▪▪▪▪▪▪▪▪▪▪▪▪▪▪▪▪▪▪▪▪▪	▪▪▪▪▪▪▪▪▪▪▪ ▪▪▪▪▪▪▪▪▪▪▪▪▪▪▪▪▪▪▪▪▪▪▪▪▪▪▪▪▪▪▪▪▪▪▪▪▪▪▪▪▪▪▪▪▪▪▪▪▪▪▪▪▪▪▪▪▪▪▪▪▪▪▪▪▪▪▪▪▪▪▪▪▪▪▪▪▪▪▪▪▪▪▪▪▪▪▪▪	▪▪▪▪▪▪▪▪▪▪▪▪▪▪▪▪▪▪▪▪▪▪▪▪▪▪▪▪▪▪ ▪▪▪▪▪▪▪▪▪▪▪▪▪▪▪▪▪▪▪▪▪▪▪▪▪▪▪▪▪▪ ▪▪▪▪▪▪▪▪▪▪▪▪▪▪▪▪▪▪▪▪▪▪▪▪▪▪▪▪▪▪▪▪▪▪▪▪▪▪▪▪▪▪▪▪▪▪▪▪▪▪▪▪▪▪▪▪▪▪▪▪▪▪▪▪▪▪▪▪▪▪▪▪▪▪▪▪▪▪▪▪▪▪▪▪▪▪▪▪	▪▪▪▪▪▪▪▪▪▪▪▪▪▪▪▪▪▪▪▪▪▪ ▪▪▪▪▪▪▪▪▪▪▪▪▪▪▪▪▪▪▪▪▪▪	▪▪▪▪▪▪▪▪▪▪▪▪▪▪▪▪▪▪▪▪▪▪▪▪▪▪▪▪▪▪▪▪▪▪▪▪▪▪▪▪▪▪▪▪▪▪▪▪▪
▪▪▪▪▪▪▪▪▪▪▪▪▪▪▪▪▪▪▪▪▪▪	▪▪▪▪▪▪▪▪▪▪▪ ▪▪▪▪▪▪▪▪▪▪▪▪▪▪▪▪▪▪▪▪▪▪▪▪▪▪▪▪▪▪▪▪▪▪▪▪▪▪▪▪▪▪▪▪▪▪▪▪▪▪▪▪▪▪▪▪▪▪▪▪▪▪▪▪▪▪▪▪▪▪▪▪▪▪▪▪▪▪▪▪▪▪▪▪▪▪▪▪	▪▪▪▪▪▪▪▪▪▪▪▪▪▪▪▪▪▪▪▪▪▪▪▪▪▪▪▪▪▪ ▪▪▪▪▪▪▪▪▪▪▪▪▪▪▪▪▪▪▪▪▪▪▪▪▪▪▪▪▪▪ ▪▪▪▪▪▪▪▪▪▪▪▪▪▪▪▪▪▪▪▪▪▪▪▪▪▪▪▪▪▪▪▪▪▪▪▪▪▪▪▪▪▪▪▪▪▪▪▪▪▪▪▪▪▪▪▪▪▪▪▪▪▪▪▪▪▪▪▪▪▪▪▪▪▪▪▪▪▪▪▪▪▪▪▪▪▪▪▪	▪▪▪▪▪▪▪▪▪▪▪▪▪▪▪▪▪▪▪▪▪▪ ▪▪▪▪▪▪▪▪▪▪▪▪▪▪▪▪▪▪▪▪▪▪	▪▪▪▪▪▪▪▪▪▪▪▪▪▪▪▪▪▪▪▪▪▪▪▪▪▪▪▪▪▪▪▪▪▪▪▪▪▪▪▪▪▪▪▪▪▪▪▪▪
▪▪▪▪▪▪▪▪▪▪▪▪▪▪▪▪▪▪▪▪▪▪	▪▪▪▪▪▪▪▪▪▪▪ ▪▪▪▪▪▪▪▪▪▪▪▪▪▪▪▪▪▪▪▪▪▪▪▪▪▪▪▪▪▪▪▪▪▪▪▪▪▪▪▪▪▪▪▪▪▪▪▪▪▪▪▪▪▪▪▪▪▪▪▪▪▪▪▪▪▪▪▪▪▪▪▪▪▪▪▪▪▪▪▪▪▪▪▪▪▪▪▪	▪▪▪▪▪▪▪▪▪▪▪▪▪▪▪▪▪▪▪▪▪▪▪▪▪▪▪▪▪▪ ▪▪▪▪▪▪▪▪▪▪▪▪▪▪▪▪▪▪▪▪▪▪▪▪▪▪▪▪▪▪ ▪▪▪▪▪▪▪▪▪▪▪▪▪▪▪▪▪▪▪▪▪▪▪▪▪▪▪▪▪▪▪▪▪▪▪▪▪▪▪▪▪▪▪▪▪▪▪▪▪▪▪▪▪▪▪▪▪▪▪▪▪▪▪▪▪▪▪▪▪▪▪▪▪▪▪▪▪▪▪▪▪▪▪▪▪▪▪▪	▪▪▪▪▪▪▪▪▪▪▪▪▪▪▪▪▪▪▪▪▪▪ ▪▪▪▪▪▪▪▪▪▪▪▪▪▪▪▪▪▪▪▪▪▪	▪▪▪▪▪▪▪▪▪▪▪▪▪▪▪▪▪▪▪▪▪▪▪▪▪▪▪▪▪▪▪▪▪▪▪▪▪▪▪▪▪▪▪▪▪▪▪▪▪
▪▪▪▪▪▪▪▪▪▪▪▪▪▪▪▪▪▪▪▪▪▪	▪▪▪▪▪▪▪▪▪▪▪ ▪▪▪▪▪▪▪▪▪▪▪▪▪▪▪▪▪▪▪▪▪▪▪▪▪▪▪▪▪▪▪▪▪▪▪▪▪▪▪▪▪▪▪▪▪▪▪▪▪▪▪▪▪▪▪▪▪▪▪▪▪▪▪▪▪▪▪▪▪▪▪▪▪▪▪▪▪▪▪▪▪▪▪▪▪▪▪▪	▪▪▪▪▪▪▪▪▪▪▪▪▪▪▪▪▪▪▪▪▪▪▪▪▪▪▪▪▪▪ ▪▪▪▪▪▪▪▪▪▪▪▪▪▪▪▪▪▪▪▪▪▪▪▪▪▪▪▪▪▪ ▪▪▪▪▪▪▪▪▪▪▪▪▪▪▪▪▪▪▪▪▪▪▪▪▪▪▪▪▪▪▪▪▪▪▪▪▪▪▪▪▪▪▪▪▪▪▪▪▪▪▪▪▪▪▪▪▪▪▪▪▪▪▪▪▪▪▪▪▪▪▪▪▪▪▪▪▪▪▪▪▪▪▪▪▪▪▪▪	▪▪▪▪▪▪▪▪▪▪▪▪▪▪▪▪▪▪▪▪▪▪ ▪▪▪▪▪▪▪▪▪▪▪▪▪▪▪▪▪▪▪▪▪▪	▪▪▪▪▪▪▪▪▪▪▪▪▪▪▪▪▪▪▪▪▪▪▪▪▪▪▪▪▪▪▪▪▪▪▪▪▪▪▪▪▪▪▪▪▪▪▪▪▪
▪▪▪▪▪▪▪▪▪▪▪▪▪▪▪▪▪▪▪▪▪▪	▪▪▪▪▪▪▪▪▪▪▪ ▪▪▪▪▪▪▪▪▪▪▪▪▪▪▪▪▪▪▪▪▪▪▪▪▪▪▪▪▪▪▪▪▪▪▪▪▪▪▪▪▪▪▪▪▪▪▪▪▪▪▪▪▪▪▪▪▪▪▪▪▪▪▪▪▪▪▪▪▪▪▪▪▪▪▪▪▪▪▪▪▪▪▪▪▪▪▪▪	▪▪▪▪▪▪▪▪▪▪▪▪▪▪▪▪▪▪▪▪▪▪▪▪▪▪▪▪▪▪ ▪▪▪▪▪▪▪▪▪▪▪▪▪▪▪▪▪▪▪▪▪▪▪▪▪▪▪▪▪▪ ▪▪▪▪▪▪▪▪▪▪▪▪▪▪▪▪▪▪▪▪▪▪▪▪▪▪▪▪▪▪▪▪▪▪▪▪▪▪▪▪▪▪▪▪▪▪▪▪▪▪▪▪▪▪▪▪▪▪▪▪▪▪▪▪▪▪▪▪▪▪▪▪▪▪▪▪▪▪▪▪▪▪▪▪▪▪▪▪	▪▪▪▪▪▪▪▪▪▪▪▪▪▪▪▪▪▪▪▪▪▪ ▪▪▪▪▪▪▪▪▪▪▪▪▪▪▪▪▪▪▪▪▪▪	▪▪▪▪▪▪▪▪▪▪▪▪▪▪▪▪▪▪▪▪▪▪▪▪▪▪▪▪▪▪▪▪▪▪▪▪▪▪▪▪▪▪▪▪▪▪▪▪▪
▪▪▪▪▪▪▪▪▪▪▪▪▪▪▪▪▪▪▪▪▪▪	▪▪▪▪▪▪▪▪▪▪▪ ▪▪▪▪▪▪▪▪▪▪▪▪▪▪▪▪▪▪▪▪▪▪▪▪▪▪▪▪▪▪▪▪▪▪▪▪▪▪▪▪▪▪▪▪▪▪▪▪▪▪▪▪▪▪▪▪▪▪▪▪▪▪▪▪▪▪▪▪▪▪▪▪▪▪▪▪▪▪▪▪▪▪▪▪▪▪▪▪	▪▪▪▪▪▪▪▪▪▪▪▪▪▪▪▪▪▪▪▪▪▪▪▪▪▪▪▪▪▪ ▪▪▪▪▪▪▪▪▪▪▪▪▪▪▪▪▪▪▪▪▪▪▪▪▪▪▪▪▪▪ ▪▪▪▪▪▪▪▪▪▪▪▪▪▪▪▪▪▪▪▪▪▪▪▪▪▪▪▪▪▪▪▪▪▪▪▪▪▪▪▪▪▪▪▪▪▪▪▪▪▪▪▪▪▪▪▪▪▪▪▪▪▪▪▪▪▪▪▪▪▪▪▪▪▪▪▪▪▪▪▪▪▪▪▪▪▪▪▪	▪▪▪▪▪▪▪▪▪▪▪▪▪▪▪▪▪▪▪▪▪▪ ▪▪▪▪▪▪▪▪▪▪▪▪▪▪▪▪▪▪▪▪▪▪	▪▪▪▪▪▪▪▪▪▪▪▪▪▪▪▪▪▪▪▪▪▪▪▪▪▪▪▪▪▪▪▪▪▪▪▪▪▪▪▪▪▪▪▪▪▪▪▪▪
▪▪▪▪▪▪▪▪▪▪▪▪▪▪▪▪▪▪▪▪▪▪	▪▪▪▪▪▪▪▪▪▪▪ ▪▪▪▪▪▪▪▪▪▪▪▪▪▪▪▪▪▪▪▪▪▪▪▪▪▪▪▪▪▪▪▪▪▪▪▪▪▪▪▪▪▪▪▪▪▪▪▪▪▪▪▪▪▪▪▪▪▪▪▪▪▪▪▪▪▪▪▪▪▪▪▪▪▪▪▪▪▪▪▪▪▪▪▪▪▪▪▪	▪▪▪▪▪▪▪▪▪▪▪▪▪▪▪▪▪▪▪▪▪▪▪▪▪▪▪▪▪▪ ▪▪▪▪▪▪▪▪▪▪▪▪▪▪▪▪▪▪▪▪▪▪▪▪▪▪▪▪▪▪ ▪▪▪▪▪▪▪▪▪▪▪▪▪▪▪▪▪▪▪▪▪▪▪▪▪▪▪▪▪▪▪▪▪▪▪▪▪▪▪▪▪▪▪▪▪▪▪▪▪▪▪▪▪▪▪▪▪▪▪▪▪▪▪▪▪▪▪▪▪▪▪▪▪▪▪▪▪▪▪▪▪▪▪▪▪▪▪▪	▪▪▪▪▪▪▪▪▪▪▪▪▪▪▪▪▪▪▪▪▪▪ ▪▪▪▪▪▪▪▪▪▪▪▪▪▪▪▪▪▪▪▪▪▪	▪▪▪▪▪▪▪▪▪▪▪▪▪▪▪▪▪▪▪▪▪▪▪▪▪▪▪▪▪▪▪▪▪▪▪▪▪▪▪▪▪▪▪▪▪▪▪▪▪
▪▪▪▪▪▪▪▪▪▪▪▪▪▪▪▪▪▪▪▪▪▪	▪▪▪▪▪▪▪▪▪▪▪ ▪▪▪▪▪▪▪▪▪▪▪▪▪▪▪▪▪▪▪▪▪▪▪▪▪▪▪▪▪▪▪▪▪▪▪▪▪▪▪▪▪▪▪▪▪▪▪▪▪▪▪▪▪▪▪▪▪▪▪▪▪▪▪▪▪▪▪▪▪▪▪▪▪▪▪▪▪▪▪▪▪▪▪▪▪▪▪▪	▪▪▪▪▪▪▪▪▪▪▪▪▪▪▪▪▪▪▪▪▪▪▪▪▪▪▪▪▪▪ ▪▪▪▪▪▪▪▪▪▪▪▪▪▪▪▪▪▪▪▪▪▪▪▪▪▪▪▪▪▪ ▪▪▪▪▪▪▪▪▪▪▪▪▪▪▪▪▪▪▪▪▪▪▪▪▪▪▪▪▪▪▪▪▪▪▪▪▪▪▪▪▪▪▪▪▪▪▪▪▪▪▪▪▪▪▪▪▪▪▪▪▪▪▪▪▪▪▪▪▪▪▪▪▪▪▪▪▪▪▪▪▪▪▪▪▪▪▪▪	▪▪▪▪▪▪▪▪▪▪▪▪▪▪▪▪▪▪▪▪▪▪ ▪▪▪▪▪▪▪▪▪▪▪▪▪▪▪▪▪▪▪▪▪▪	▪▪▪▪▪▪▪▪▪▪▪▪▪▪▪▪▪▪▪▪▪▪▪▪▪▪▪▪▪▪▪▪▪▪▪▪▪▪▪▪▪▪▪▪▪▪▪▪▪
▪▪▪▪▪▪▪▪▪▪▪▪▪▪▪▪▪▪▪▪▪▪	▪▪▪▪▪▪▪▪▪▪▪ ▪▪▪▪▪▪▪▪▪▪▪▪▪▪▪▪▪▪▪▪▪▪▪▪▪▪▪▪▪▪▪▪▪▪▪▪▪▪▪▪▪▪▪▪▪▪▪▪▪▪▪▪▪▪▪▪▪▪▪▪▪▪▪▪▪▪▪▪▪▪▪▪▪▪▪▪▪▪▪▪▪▪▪▪▪▪▪▪	▪▪▪▪▪▪▪▪▪▪▪▪▪▪▪▪▪▪▪▪▪▪▪▪▪▪▪▪▪▪ ▪▪▪▪▪▪▪▪▪▪▪▪▪▪▪▪▪▪▪▪▪▪▪▪▪▪▪▪▪▪ ▪▪▪▪▪▪▪▪▪▪▪▪▪▪▪▪▪▪▪▪▪▪▪▪▪▪▪▪▪▪▪▪▪▪▪▪▪▪▪▪▪▪▪▪▪▪▪▪▪▪▪▪▪▪▪▪▪▪▪▪▪▪▪▪▪▪▪▪▪▪▪▪▪▪▪▪▪▪▪▪▪▪▪▪▪▪▪▪	▪▪▪▪▪▪▪▪▪▪▪▪▪▪▪▪▪▪▪▪▪▪ ▪▪▪▪▪▪▪▪▪▪▪▪▪▪▪▪▪▪▪▪▪▪	▪▪▪▪▪▪▪▪▪▪▪▪▪▪▪▪▪▪▪▪▪▪▪▪▪▪▪▪▪▪▪▪▪▪▪▪▪▪▪▪▪▪▪▪▪▪▪▪▪
▪▪▪▪▪▪▪▪▪▪▪▪▪▪▪▪▪▪▪▪▪▪	▪▪▪▪▪▪▪▪▪▪▪ ▪▪▪▪▪▪▪▪▪▪▪▪▪▪▪▪▪▪▪▪▪▪▪▪▪▪▪▪▪▪▪▪▪▪▪▪▪▪▪▪▪▪▪▪▪▪▪▪▪▪▪▪▪▪▪▪▪▪▪▪▪▪▪▪▪▪▪▪▪▪▪▪▪▪▪▪▪▪▪▪▪▪▪▪▪▪▪▪	▪▪▪▪▪▪▪▪▪▪▪▪▪▪▪▪▪▪▪▪▪▪▪▪▪▪▪▪▪▪ ▪▪▪▪▪▪▪▪▪▪▪▪▪▪▪▪▪▪▪▪▪▪▪▪▪▪▪▪▪▪ ▪▪▪▪▪▪▪▪▪▪▪▪▪▪▪▪▪▪▪▪▪▪▪▪▪▪▪▪▪▪▪▪▪▪▪▪▪▪▪▪▪▪▪▪▪▪▪▪▪▪▪▪▪▪▪▪▪▪▪▪▪▪▪▪▪▪▪▪▪▪▪▪▪▪▪▪▪▪▪▪▪▪▪▪▪▪▪▪	▪▪▪▪▪▪▪▪▪▪▪▪▪▪▪▪▪▪▪▪▪▪ ▪▪▪▪▪▪▪▪▪▪▪▪▪▪▪▪▪▪▪▪▪▪	▪▪▪▪▪▪▪▪▪▪▪▪▪▪▪▪▪▪▪▪▪▪▪▪▪▪▪▪▪▪▪▪▪▪▪▪▪▪▪▪▪▪▪▪▪▪▪▪▪
▪▪▪▪▪▪▪▪▪▪▪▪▪▪▪▪▪▪▪▪▪▪	▪▪▪▪▪▪▪▪▪▪▪ ▪▪▪▪▪▪▪▪▪▪▪▪▪▪▪▪▪▪▪▪▪▪▪▪▪▪▪▪▪▪▪▪▪▪▪▪▪▪▪▪▪▪▪▪▪▪▪▪▪▪▪▪▪▪▪▪▪▪▪▪▪▪▪▪▪▪▪▪▪▪▪▪▪▪▪▪▪▪▪▪▪▪▪▪▪▪▪▪	▪▪▪▪▪▪▪▪▪▪▪▪▪▪▪▪▪▪▪▪▪▪▪▪▪▪▪▪▪▪ ▪▪▪▪▪▪▪▪▪▪▪▪▪▪▪▪▪▪▪▪▪▪▪▪▪▪▪▪▪▪ ▪▪▪▪▪▪▪▪▪▪▪▪▪▪▪▪▪▪▪▪▪▪▪▪▪▪▪▪▪▪▪▪▪▪▪▪▪▪▪▪▪▪▪▪▪▪▪▪▪▪▪▪▪▪▪▪▪▪▪▪▪▪▪▪▪▪▪▪▪▪▪▪▪▪▪▪▪▪▪▪▪▪▪▪▪▪▪▪	▪▪▪▪▪▪▪▪▪▪▪▪▪▪▪▪▪▪▪▪▪▪ ▪▪▪▪▪▪▪▪▪▪▪▪▪▪▪▪▪▪▪▪▪▪	▪▪▪▪▪▪▪▪▪▪▪▪▪▪▪▪▪▪▪▪▪▪▪▪▪▪▪▪▪▪▪▪▪▪▪▪▪▪▪▪▪▪▪▪▪▪▪▪▪
▪▪▪▪▪▪▪▪▪▪▪▪▪▪▪▪▪▪▪▪▪▪	▪▪▪▪▪▪▪▪▪▪▪ ▪▪▪▪▪▪▪▪▪▪▪▪▪▪▪▪▪▪▪▪▪▪▪▪▪▪▪▪▪▪▪▪▪▪▪▪▪▪▪▪▪▪▪▪▪▪▪▪▪▪▪▪▪▪▪▪▪▪▪▪▪▪▪▪▪▪▪▪▪▪▪▪▪▪▪▪▪▪▪▪▪▪▪▪▪▪▪▪	▪▪▪▪▪▪▪▪▪▪▪▪▪▪▪▪▪▪▪▪▪▪▪▪▪▪▪▪▪▪ ▪▪▪▪▪▪▪▪▪▪▪▪▪▪▪▪▪▪▪▪▪▪▪▪▪▪▪▪▪▪ ▪▪▪▪▪▪▪▪▪▪▪▪▪▪▪▪▪▪▪▪▪▪▪▪▪▪▪▪▪▪▪▪▪▪▪▪▪▪▪▪▪▪▪▪▪▪▪▪▪▪▪▪▪▪▪▪▪▪▪▪▪▪▪▪▪▪▪▪▪▪▪▪▪▪▪▪▪▪▪▪▪▪▪▪▪▪▪▪	▪▪▪▪▪▪▪▪▪▪▪▪▪▪▪▪▪▪▪▪▪▪ ▪▪▪▪▪▪▪▪▪▪▪▪▪▪▪▪▪▪▪▪▪▪	▪▪▪▪▪▪▪▪▪▪▪▪▪▪▪▪▪▪▪▪▪▪▪▪▪▪▪▪▪▪▪▪▪▪▪▪▪▪▪▪▪▪▪▪▪▪▪▪▪
▪▪▪▪▪▪▪▪▪▪▪▪▪▪▪▪▪▪▪▪▪▪	▪▪▪▪▪▪▪▪▪▪▪ ▪▪▪▪▪▪▪▪▪▪▪▪▪▪▪▪▪▪▪▪▪▪▪▪▪▪▪▪▪▪▪▪▪▪▪▪▪▪▪▪▪▪▪▪▪▪▪▪▪▪▪▪▪▪▪▪▪▪▪▪▪▪▪▪▪▪▪▪▪▪▪▪▪▪▪▪▪▪▪▪▪▪▪▪▪▪▪▪	▪▪▪▪▪▪▪▪▪▪▪▪▪▪▪▪▪▪▪▪▪▪▪▪▪▪▪▪▪▪ ▪▪▪▪▪▪▪▪▪▪▪▪▪▪▪▪▪▪▪▪▪▪▪▪▪▪▪▪▪▪ ▪▪▪▪▪▪▪▪▪▪▪▪▪▪▪▪▪▪▪▪▪▪▪▪▪▪▪▪▪▪▪▪▪▪▪▪▪▪▪▪▪▪▪▪▪▪▪▪▪▪▪▪▪▪▪▪▪▪▪▪▪▪▪▪▪▪▪▪▪▪▪▪▪▪▪▪▪▪▪▪▪▪▪▪▪▪▪▪	▪▪▪▪▪▪▪▪▪▪▪▪▪▪▪▪▪▪▪▪▪▪ ▪▪▪▪▪▪▪▪▪▪▪▪▪▪▪▪▪▪▪▪▪▪	▪▪▪▪▪▪▪▪▪▪▪▪▪▪▪▪▪▪▪▪▪▪▪▪▪▪▪▪▪▪▪▪▪▪▪▪▪▪▪▪▪▪▪▪▪▪▪▪▪
▪▪▪▪▪▪▪▪▪▪▪▪▪▪▪▪▪▪▪▪▪▪	▪▪▪▪▪▪▪▪▪▪▪ ▪▪▪▪▪▪▪▪▪▪▪▪▪▪▪▪▪▪▪▪▪▪▪▪▪▪▪▪▪▪▪▪▪▪▪▪▪▪▪▪▪▪▪▪▪▪▪▪▪▪▪▪▪▪▪▪▪▪▪▪▪▪▪▪▪▪▪▪▪▪▪▪▪▪▪▪▪▪▪▪▪▪▪▪▪▪▪▪	▪▪▪▪▪▪▪▪▪▪▪▪▪▪▪▪▪▪▪▪▪▪▪▪▪▪▪▪▪▪ ▪▪▪▪▪▪▪▪▪▪▪▪▪▪▪▪▪▪▪▪▪▪▪▪▪▪▪▪▪▪ ▪▪▪▪▪▪▪▪▪▪▪▪▪▪▪▪▪▪▪▪▪▪▪▪▪▪▪▪▪▪▪▪▪▪▪▪▪▪▪▪▪▪▪▪▪▪▪▪▪▪▪▪▪▪▪▪▪▪▪▪▪▪▪▪▪▪▪▪▪▪▪▪▪▪▪▪▪▪▪▪▪▪▪▪▪▪▪▪	▪▪▪▪▪▪▪▪▪▪▪▪▪▪▪▪▪▪▪▪▪▪ ▪▪▪▪▪▪▪▪▪▪▪▪▪▪▪▪▪▪▪▪▪▪	▪▪▪▪▪▪▪▪▪▪▪▪▪▪▪▪▪▪▪▪▪▪▪▪▪▪▪▪▪▪▪▪▪▪▪▪▪▪▪▪▪▪▪▪▪▪▪▪▪
▪▪▪▪▪▪▪▪▪▪▪▪▪▪▪▪▪▪▪▪▪▪	▪▪▪▪▪▪▪▪▪▪▪ ▪▪▪▪▪▪▪▪▪▪▪▪▪▪▪▪▪▪▪▪▪▪▪▪▪▪▪▪▪▪▪▪▪▪▪▪▪▪▪▪▪▪▪▪▪▪▪▪▪▪▪▪▪▪▪▪▪▪▪▪▪▪▪▪▪▪▪▪▪▪▪▪▪▪▪▪▪▪▪▪▪▪▪▪▪▪▪▪	▪▪▪▪▪▪▪▪▪▪▪▪▪▪▪▪▪▪▪▪▪▪▪▪▪▪▪▪▪▪ ▪▪▪▪▪▪▪▪▪▪▪▪▪▪▪▪▪▪▪▪▪▪▪▪▪▪▪▪▪▪ ▪▪▪▪▪▪▪▪▪▪▪▪▪▪▪▪▪▪▪▪▪▪▪▪▪▪▪▪▪▪▪▪▪▪▪▪▪▪▪▪▪▪▪▪▪▪▪▪▪▪▪▪▪▪▪▪▪▪▪▪▪▪▪▪▪▪▪▪▪▪▪▪▪▪▪▪▪▪▪▪▪▪▪▪▪▪▪▪	▪▪▪▪▪▪▪▪▪▪▪▪▪▪▪▪▪▪▪▪▪▪ ▪▪▪▪▪▪▪▪▪▪▪▪▪▪▪▪▪▪▪▪▪▪	▪▪▪▪▪▪▪▪▪▪▪▪▪▪▪▪▪▪▪▪▪▪▪▪▪▪▪▪▪▪▪▪▪▪▪▪▪▪▪▪▪▪▪▪▪▪▪▪▪
▪▪▪▪▪▪▪▪▪▪▪▪▪▪▪▪▪▪▪▪▪▪	▪▪▪▪▪▪▪▪▪▪▪ ▪▪▪▪▪▪▪▪▪▪▪▪▪▪▪▪▪▪▪▪▪▪▪▪▪▪▪▪▪▪▪▪▪▪▪▪▪▪▪▪▪▪▪▪▪▪▪▪▪▪▪▪▪▪▪▪▪▪▪▪▪▪▪▪▪▪▪▪▪▪▪▪▪▪▪▪▪▪▪▪▪▪▪▪▪▪▪▪	▪▪▪▪▪▪▪▪▪▪▪▪▪▪▪▪▪▪▪▪▪▪▪▪▪▪▪▪▪▪ ▪▪▪▪▪▪▪▪▪▪▪▪▪▪▪▪▪▪▪▪▪▪▪▪▪▪▪▪▪▪ ▪▪▪▪▪▪▪▪▪▪▪▪▪▪▪▪▪▪▪▪▪▪▪▪▪▪▪▪▪▪▪▪▪▪▪▪▪▪▪▪▪▪▪▪▪▪▪▪▪▪▪▪▪▪▪▪▪▪▪▪▪▪▪▪▪▪▪▪▪▪▪▪▪▪▪▪▪▪▪▪▪▪▪▪▪▪▪▪	▪▪▪▪▪▪▪▪▪▪▪▪▪▪▪▪▪▪▪▪▪▪ ▪▪▪▪▪▪▪▪▪▪▪▪▪▪▪▪▪▪▪▪▪▪	▪▪▪▪▪▪▪▪▪▪▪▪▪▪▪▪▪▪▪▪▪▪▪▪▪▪▪▪▪▪▪▪▪▪▪▪▪▪▪▪▪▪▪▪▪▪▪▪▪
▪▪▪▪▪▪▪▪▪▪▪▪▪▪▪▪▪▪▪▪▪▪	▪▪▪▪▪▪▪▪▪▪▪ ▪▪▪▪▪▪▪▪▪▪▪▪▪▪▪▪▪▪▪▪▪▪▪▪▪▪▪▪▪▪▪▪▪▪▪▪▪▪▪▪▪▪▪▪▪▪▪▪▪▪▪▪▪▪▪▪▪▪▪▪▪▪▪▪▪▪▪▪▪▪▪▪▪▪▪▪▪▪▪▪▪▪▪▪▪▪▪▪	▪▪▪▪▪▪▪▪▪▪▪▪▪▪▪▪▪▪▪▪▪▪▪▪▪▪▪▪▪▪ ▪▪▪▪▪▪▪▪▪▪▪▪▪▪▪▪▪▪▪▪▪▪▪▪▪▪▪▪▪▪ ▪▪▪▪▪▪▪▪▪▪▪▪▪▪▪▪▪▪▪▪▪▪▪▪▪▪▪▪▪▪▪▪▪▪▪▪▪▪▪▪▪▪▪▪▪▪▪▪▪▪▪▪▪▪▪▪▪▪▪▪▪▪▪▪▪▪▪▪▪▪▪▪▪▪▪▪▪▪▪▪▪▪▪▪▪▪▪▪	▪▪▪▪▪▪▪▪▪▪▪▪▪▪▪▪▪▪▪▪▪▪ ▪▪▪▪▪▪▪▪▪▪▪▪▪▪▪▪▪▪▪▪▪▪	▪▪▪▪▪▪▪▪▪▪▪▪▪▪▪▪▪▪▪▪▪▪▪▪▪▪▪▪▪▪▪▪▪▪▪▪▪▪▪▪▪▪▪▪▪▪▪▪▪
▪▪▪▪▪▪▪▪▪▪▪▪▪▪▪▪▪▪▪▪▪▪	▪▪▪▪▪▪▪▪▪▪▪ ▪▪▪▪▪▪▪▪▪▪▪▪▪▪▪▪▪▪▪▪▪▪▪▪▪▪▪▪▪▪▪▪▪▪▪▪▪▪▪▪▪▪▪▪▪▪▪▪▪▪▪▪▪▪▪▪▪▪▪▪▪▪▪▪▪▪▪▪▪▪▪▪▪▪▪▪▪▪▪▪▪▪▪▪▪▪▪▪	▪▪▪▪▪▪▪▪▪▪▪▪▪▪▪▪▪▪▪▪▪▪▪▪▪▪▪▪▪▪ ▪▪▪▪▪▪▪▪▪▪▪▪▪▪▪▪▪▪▪▪▪▪▪▪▪▪▪▪▪▪ ▪▪▪▪▪▪▪▪▪▪▪▪▪▪▪▪▪▪▪▪▪▪▪▪▪▪▪▪▪▪▪▪▪▪▪▪▪▪▪▪▪▪▪▪▪▪▪▪▪▪▪▪▪▪▪▪▪▪▪▪▪▪▪▪▪▪▪▪▪▪▪▪▪▪▪▪▪▪▪▪▪▪▪▪▪▪▪▪	▪▪▪▪▪▪▪▪▪▪▪▪▪▪▪▪▪▪▪▪▪▪ ▪▪▪▪▪▪▪▪▪▪▪▪▪▪▪▪▪▪▪▪▪▪	▪▪▪▪▪▪▪▪▪▪▪▪▪▪▪▪▪▪▪▪▪▪▪▪▪▪▪▪▪▪▪▪▪▪▪▪▪▪▪▪▪▪▪▪▪▪▪▪▪
▪▪▪▪▪▪▪▪▪▪▪▪▪▪▪▪▪▪▪▪▪▪	▪▪▪▪▪▪▪▪▪▪▪ ▪▪▪▪▪▪▪▪▪▪▪▪▪▪▪▪▪▪▪▪▪▪▪▪▪▪▪▪▪▪▪▪▪▪▪▪▪▪▪▪▪▪▪▪▪▪▪▪▪▪▪▪▪▪▪▪▪▪▪▪▪▪▪▪▪▪▪▪▪▪▪▪▪▪▪▪▪▪▪▪▪▪▪▪▪▪▪▪	▪▪▪▪▪▪▪▪▪▪▪▪▪▪▪▪▪▪▪▪▪▪▪▪▪▪▪▪▪▪ ▪▪▪▪▪▪▪▪▪▪▪▪▪▪▪▪▪▪▪▪▪▪▪▪▪▪▪▪▪▪ ▪▪▪▪▪▪▪▪▪▪▪▪▪▪▪▪▪▪▪▪▪▪▪▪▪▪▪▪▪▪▪▪▪▪▪▪▪▪▪▪▪▪▪▪▪▪▪▪▪▪▪▪▪▪▪▪▪▪▪▪▪▪▪▪▪▪▪▪▪▪▪▪▪▪▪▪▪▪▪▪▪▪▪▪▪▪▪▪	▪▪▪▪▪▪▪▪▪▪▪▪▪▪▪▪▪▪▪▪▪▪ ▪▪▪▪▪▪▪▪▪▪▪▪▪▪▪▪▪▪▪▪▪▪	▪▪▪▪▪▪▪▪▪▪▪▪▪▪▪▪▪▪▪▪▪▪▪▪▪▪▪▪▪▪▪▪▪▪▪▪▪▪▪▪▪▪▪▪▪▪▪▪▪
▪▪▪▪▪▪▪▪▪▪▪▪▪▪▪▪▪▪▪▪▪▪	▪▪▪▪▪▪▪▪▪▪▪ ▪▪▪▪▪▪▪▪▪▪▪▪▪▪▪▪▪▪▪▪▪▪▪▪▪▪▪▪▪▪▪▪▪▪▪▪▪▪▪▪▪▪▪▪▪▪▪▪▪▪▪▪▪▪▪▪▪▪▪▪▪▪▪▪▪▪▪▪▪▪▪▪▪▪▪▪▪▪▪▪▪▪▪▪▪▪▪▪	▪▪▪▪▪▪▪▪▪▪▪▪▪▪▪▪▪▪▪▪▪▪▪▪▪▪▪▪▪▪ ▪▪▪▪▪▪▪▪▪▪▪▪▪▪▪▪▪▪▪▪▪▪▪▪▪▪▪▪▪▪ ▪▪▪▪▪▪▪▪▪▪▪▪▪▪▪▪▪▪▪▪▪▪▪▪▪▪▪▪▪▪▪▪▪▪▪▪▪▪▪▪▪▪▪▪▪▪▪▪▪▪▪▪▪▪▪▪▪▪▪▪▪▪▪▪▪▪▪▪▪▪▪▪▪▪▪▪▪▪▪▪▪▪▪▪▪▪▪▪	▪▪▪▪▪▪▪▪▪▪▪▪▪▪▪▪▪▪▪▪▪▪ ▪▪▪▪▪▪▪▪▪▪▪▪▪▪▪▪▪▪▪▪▪▪	▪▪▪▪▪▪▪▪▪▪▪▪▪▪▪▪▪▪▪▪▪▪▪▪▪▪▪▪▪▪▪▪▪▪▪▪▪▪▪▪▪▪▪▪▪▪▪▪▪
▪▪▪▪▪▪▪▪▪▪▪▪▪▪▪▪▪▪▪▪▪▪	▪▪▪▪▪▪▪▪▪▪▪ ▪▪▪▪▪▪▪▪▪▪▪▪▪▪▪▪▪▪▪▪▪▪▪▪▪▪▪▪▪▪▪▪▪▪▪▪▪▪▪▪▪▪▪▪▪▪▪▪▪▪▪▪▪▪▪▪▪▪▪▪▪▪▪▪▪▪▪▪▪▪▪▪▪▪▪▪▪▪▪▪▪▪▪▪▪▪▪▪	▪▪▪▪▪▪▪▪▪▪▪▪▪▪▪▪▪▪▪▪▪▪▪▪▪▪▪▪▪▪ ▪▪▪▪▪▪▪▪▪▪▪▪▪▪▪▪▪▪▪▪▪▪▪▪▪▪▪▪▪▪ ▪▪▪▪▪▪▪▪▪▪▪▪▪▪▪▪▪▪▪▪▪▪▪▪▪▪▪▪▪▪▪▪▪▪▪▪▪▪▪▪▪▪▪▪▪▪▪▪▪▪▪▪▪▪▪▪▪▪▪▪▪▪▪▪▪▪▪▪▪▪▪▪▪▪▪▪▪▪▪▪▪▪▪▪▪▪▪▪	▪▪▪▪▪▪▪▪▪▪▪▪▪▪▪▪▪▪▪▪▪▪ ▪▪▪▪▪▪▪▪▪▪▪▪▪▪▪▪▪▪▪▪▪▪	▪▪▪▪▪▪▪▪▪▪▪▪▪▪▪▪▪▪▪▪▪▪▪▪▪▪▪▪▪▪▪▪▪▪▪▪▪▪▪▪▪▪▪▪▪▪▪▪▪
▪▪▪▪▪▪▪▪▪▪▪▪▪▪▪▪▪▪▪▪▪▪	▪▪▪▪▪▪▪▪▪▪▪ ▪▪▪▪▪▪▪▪▪▪▪▪▪▪▪▪▪▪▪▪▪▪▪▪▪▪▪▪▪▪▪▪▪▪▪▪▪▪▪▪▪▪▪▪▪▪▪▪▪▪▪▪▪▪▪▪▪▪▪▪▪▪▪▪▪▪▪▪▪▪▪▪▪▪▪▪▪▪▪▪▪▪▪▪▪▪▪▪	▪▪▪▪▪▪▪▪▪▪▪▪▪▪▪▪▪▪▪▪▪▪▪▪▪▪▪▪▪▪ ▪▪▪▪▪▪▪▪▪▪▪▪▪▪▪▪▪▪▪▪▪▪▪▪▪▪▪▪▪▪ ▪▪▪▪▪▪▪▪▪▪▪▪▪▪▪▪▪▪▪▪▪▪▪▪▪▪▪▪▪▪▪▪▪▪▪▪▪▪▪▪▪▪▪▪▪▪▪▪▪▪▪▪▪▪▪▪▪▪▪▪▪▪▪▪▪▪▪▪▪▪▪▪▪▪▪▪▪▪▪▪▪▪▪▪▪▪▪▪	▪▪▪▪▪▪▪▪▪▪▪▪▪▪▪▪▪▪▪▪▪▪ ▪▪▪▪▪▪▪▪▪▪▪▪▪▪▪▪▪▪▪▪▪▪	▪▪▪▪▪▪▪▪▪▪▪▪▪▪▪▪▪▪▪▪▪▪▪▪▪▪▪▪▪▪▪▪▪▪▪▪▪▪▪▪▪▪▪▪▪▪▪▪▪
▪▪▪▪▪▪▪▪▪▪▪▪▪▪▪▪▪▪▪▪▪▪	▪▪▪▪▪▪▪▪▪▪▪ ▪▪▪▪▪▪▪▪▪▪▪▪▪▪▪▪▪▪▪▪▪▪▪▪▪▪▪▪▪▪▪▪▪▪▪▪▪▪▪▪▪▪▪▪▪▪▪▪▪▪▪▪▪▪▪▪▪▪▪▪▪▪▪▪▪▪▪▪▪▪▪▪▪▪▪▪▪▪▪▪▪▪▪▪▪▪▪▪	▪▪▪▪▪▪▪▪▪▪▪▪▪▪▪▪▪▪▪▪▪▪▪▪▪▪▪▪▪▪ ▪▪▪▪▪▪▪▪▪▪▪▪▪▪▪▪▪▪▪▪▪▪▪▪▪▪▪▪▪▪ ▪▪▪▪▪▪▪▪▪▪▪▪▪▪▪▪▪▪▪▪▪▪▪▪▪▪▪▪▪▪▪▪▪▪▪▪▪▪▪▪▪▪▪▪▪▪▪▪▪▪▪▪▪▪▪▪▪▪▪▪▪▪▪▪▪▪▪▪▪▪▪▪▪▪▪▪▪▪▪▪▪▪▪▪▪▪▪▪	▪▪▪▪▪▪▪▪▪▪▪▪▪▪▪▪▪▪▪▪▪▪ ▪▪▪▪▪▪▪▪▪▪▪▪▪▪▪▪▪▪▪▪▪▪	▪▪▪▪▪▪▪▪▪▪▪▪▪▪▪▪▪▪▪▪▪▪▪▪▪▪▪▪▪▪▪▪▪▪▪▪▪▪▪▪▪▪▪▪▪▪▪▪▪
▪▪▪▪▪▪▪▪▪▪▪▪▪▪▪▪▪▪▪▪▪▪	▪▪▪▪▪▪▪▪▪▪▪ ▪▪▪▪▪▪▪▪▪▪▪▪▪▪▪▪▪▪▪▪▪▪▪▪▪▪▪▪▪▪▪▪▪▪▪▪▪▪▪▪▪▪▪▪▪▪▪▪▪▪▪▪▪▪▪▪▪▪▪▪▪▪▪▪▪▪▪▪▪▪▪▪▪▪▪▪▪▪▪▪▪▪▪▪▪▪▪▪	▪▪▪▪▪▪▪▪▪▪▪▪▪▪▪▪▪▪▪▪▪▪▪▪▪▪▪▪▪▪ ▪▪▪▪▪▪▪▪▪▪▪▪▪▪▪▪▪▪▪▪▪▪▪▪▪▪▪▪▪▪ ▪▪▪▪▪▪▪▪▪▪▪▪▪▪▪▪▪▪▪▪▪▪▪▪▪▪▪▪▪▪▪▪▪▪▪▪▪▪▪▪▪▪▪▪▪▪▪▪▪▪▪▪▪▪▪▪▪▪▪▪▪▪▪▪▪▪▪▪▪▪▪▪▪▪▪▪▪▪▪▪▪▪▪▪▪▪▪▪	▪▪▪▪▪▪▪▪▪▪▪▪▪▪▪▪▪▪▪▪▪▪ ▪▪▪▪▪▪▪▪▪▪▪▪▪▪▪▪▪▪▪▪▪▪	▪▪▪▪▪▪▪▪▪▪▪▪▪▪▪▪▪▪▪▪▪▪▪▪▪▪▪▪▪▪▪▪▪▪▪▪▪▪▪▪▪▪▪▪▪▪▪▪▪
▪▪▪▪▪▪▪▪▪▪▪▪▪▪▪▪▪▪▪▪▪▪	▪▪▪▪▪▪▪▪▪▪▪ ▪▪▪▪▪▪▪▪▪▪▪▪▪▪▪▪▪▪▪▪▪▪▪▪▪▪▪▪▪▪▪▪▪▪▪▪▪▪▪▪▪▪▪▪▪▪▪▪▪▪▪▪▪▪▪▪▪▪▪▪▪▪▪▪▪▪▪▪▪▪▪▪▪▪▪▪▪▪▪▪▪▪▪▪▪▪▪▪	▪▪▪▪▪▪▪▪▪▪▪▪▪▪▪▪▪▪▪▪▪▪▪▪▪▪▪▪▪▪ ▪▪▪▪▪▪▪▪▪▪▪▪▪▪▪▪▪▪▪▪▪▪▪▪▪▪▪▪▪▪ ▪▪▪▪▪▪▪▪▪▪▪▪▪▪▪▪▪▪▪▪▪▪▪▪▪▪▪▪▪▪▪▪▪▪▪▪▪▪▪▪▪▪▪▪▪▪▪▪▪▪▪▪▪▪▪▪▪▪▪▪▪▪▪▪▪▪▪▪▪▪▪▪▪▪▪▪▪▪▪▪▪▪▪▪▪▪▪▪	▪▪▪▪▪▪▪▪▪▪▪▪▪▪▪▪▪▪▪▪▪▪ ▪▪▪▪▪▪▪▪▪▪▪▪▪▪▪▪▪▪▪▪▪▪	▪▪▪▪▪▪▪▪▪▪▪▪▪▪▪▪▪▪▪▪▪▪▪▪▪▪▪▪▪▪▪▪▪▪▪▪▪▪▪▪▪▪▪▪▪▪▪▪▪
▪▪▪▪▪▪▪▪▪▪▪▪▪▪▪▪▪▪▪▪▪▪	▪▪▪▪▪▪▪▪▪▪▪ ▪▪▪▪▪▪▪▪▪▪▪▪▪▪▪▪▪▪▪▪▪▪▪▪▪▪▪▪▪▪▪▪▪▪▪▪▪▪▪▪▪▪▪▪▪▪▪▪▪▪▪▪▪▪▪▪▪▪▪▪▪▪▪▪▪▪▪▪▪▪▪▪▪▪▪▪▪▪▪▪▪▪▪▪▪▪▪▪	▪▪▪▪▪▪▪▪▪▪▪▪▪▪▪▪▪▪▪▪▪▪▪▪▪▪▪▪▪▪ ▪▪▪▪▪▪▪▪▪▪▪▪▪▪▪▪▪▪▪▪▪▪▪▪▪▪▪▪▪▪ ▪▪▪▪▪▪▪▪▪▪▪▪▪▪▪▪▪▪▪▪▪▪▪▪▪▪▪▪▪▪▪▪▪▪▪▪▪▪▪▪▪▪▪▪▪▪▪▪▪▪▪▪▪▪▪▪▪▪▪▪▪▪▪▪▪▪▪▪▪▪▪▪▪▪▪▪▪▪▪▪▪▪▪▪▪▪▪▪	▪▪▪▪▪▪▪▪▪▪▪▪▪▪▪▪▪▪▪▪▪▪ ▪▪▪▪▪▪▪▪▪▪▪▪▪▪▪▪▪▪▪▪▪▪	▪▪▪▪▪▪▪▪▪▪▪▪▪▪▪▪▪▪▪▪▪▪▪▪▪▪▪▪▪▪▪▪▪▪▪▪▪▪▪▪▪▪▪▪▪▪▪▪▪
▪▪▪▪▪▪▪▪▪▪▪▪▪▪▪▪▪▪▪▪▪▪	▪▪▪▪▪▪▪▪▪▪▪ ▪▪▪▪▪▪▪▪▪▪▪▪▪▪▪▪▪▪▪▪▪▪▪▪▪▪▪▪▪▪▪▪▪▪▪▪▪▪▪▪▪▪▪▪▪▪▪▪▪▪▪▪▪▪▪▪▪▪▪▪▪▪▪▪▪▪▪▪▪▪▪▪▪▪▪▪▪▪▪▪▪▪▪▪▪▪▪▪	▪▪▪▪▪▪▪▪▪▪▪▪▪▪▪▪▪▪▪▪▪▪▪▪▪▪▪▪▪▪ ▪▪▪▪▪▪▪▪▪▪▪▪▪▪▪▪▪▪▪▪▪▪▪▪▪▪▪▪▪▪ ▪▪▪▪▪▪▪▪▪▪▪▪▪▪▪▪▪▪▪▪▪▪▪▪▪▪▪▪▪▪▪▪▪▪▪▪▪▪▪▪▪▪▪▪▪▪▪▪▪▪▪▪▪▪▪▪▪▪▪▪▪▪▪▪▪▪▪▪▪▪▪▪▪▪▪▪▪▪▪▪▪▪▪▪▪▪▪▪	▪▪▪▪▪▪▪▪▪▪▪▪▪▪▪▪▪▪▪▪▪▪ ▪▪▪▪▪▪▪▪▪▪▪▪▪▪▪▪▪▪▪▪▪▪	▪▪▪▪▪▪▪▪▪▪▪▪▪▪▪▪▪▪▪▪▪▪▪▪▪▪▪▪▪▪▪▪▪▪▪▪▪▪▪▪▪▪▪▪▪▪▪▪▪
▪▪▪▪▪▪▪▪▪▪▪▪▪▪▪▪▪▪▪▪▪▪	▪▪▪▪▪▪▪▪▪▪▪ ▪▪▪▪▪▪▪▪▪▪▪▪▪▪▪▪▪▪▪▪▪▪▪▪▪▪▪▪▪▪▪▪▪▪▪▪▪▪▪▪▪▪▪▪▪▪▪▪▪▪▪▪▪▪▪▪▪▪▪▪▪▪▪▪▪▪▪▪▪▪▪▪▪▪▪▪▪▪▪▪▪▪▪▪▪▪▪▪	▪▪▪▪▪▪▪▪▪▪▪▪▪▪▪▪▪▪▪▪▪▪▪▪▪▪▪▪▪▪ ▪▪▪▪▪▪▪▪▪▪▪▪▪▪▪▪▪▪▪▪▪▪▪▪▪▪▪▪▪▪ ▪▪▪▪▪▪▪▪▪▪▪▪▪▪▪▪▪▪▪▪▪▪▪▪▪▪▪▪▪▪▪▪▪▪▪▪▪▪▪▪▪▪▪▪▪▪▪▪▪▪▪▪▪▪▪▪▪▪▪▪▪▪▪▪▪▪▪▪▪▪▪▪▪▪▪▪▪▪▪▪▪▪▪▪▪▪▪▪	▪▪▪▪▪▪▪▪▪▪▪▪▪▪▪▪▪▪▪▪▪▪ ▪▪▪▪▪▪▪▪▪▪▪▪▪▪▪▪▪▪▪▪▪▪	▪▪▪▪▪▪▪▪▪▪▪▪▪▪▪▪▪▪▪▪▪▪▪▪▪▪▪▪▪▪▪▪▪▪▪▪▪▪▪▪▪▪▪▪▪▪▪▪▪
▪▪▪▪▪▪▪▪▪▪▪▪▪▪▪▪▪▪▪▪▪▪	▪▪▪▪▪▪▪▪▪▪▪ ▪▪▪▪▪▪▪▪▪▪▪▪▪▪▪▪▪▪▪▪▪▪▪▪▪▪▪▪▪▪▪▪▪▪▪▪▪▪▪▪▪▪▪▪▪▪▪▪▪▪▪▪▪▪▪▪▪▪▪▪▪▪▪▪▪▪▪▪▪▪▪▪▪▪▪▪▪▪▪▪▪▪▪▪▪▪▪▪	▪▪▪▪▪▪▪▪▪▪▪▪▪▪▪▪▪▪▪▪▪▪▪▪▪▪▪▪▪▪ ▪▪▪▪▪▪▪▪▪▪▪▪▪▪▪▪▪▪▪▪▪▪▪▪▪▪▪▪▪▪ ▪▪▪▪▪▪▪▪▪▪▪▪▪▪▪▪▪▪▪▪▪▪▪▪▪▪▪▪▪▪▪▪▪▪▪▪▪▪▪▪▪▪▪▪▪▪▪▪▪▪▪▪▪▪▪▪▪▪▪▪▪▪▪▪▪▪▪▪▪▪▪▪▪▪▪▪▪▪▪▪▪▪▪▪▪▪▪▪	▪▪▪▪▪▪▪▪▪▪▪▪▪▪▪▪▪▪▪▪▪▪ ▪▪▪▪▪▪▪▪▪▪▪▪▪▪▪▪▪▪▪▪▪▪	▪▪▪▪▪▪▪▪▪▪▪▪▪▪▪▪▪▪▪▪▪▪▪▪▪▪▪▪▪▪▪▪▪▪▪▪▪▪▪▪▪▪▪▪▪▪▪▪▪
▪▪▪▪▪▪▪▪▪▪▪▪▪▪▪▪▪▪▪▪▪▪	▪▪▪▪▪▪▪▪▪▪▪ ▪▪▪▪▪▪▪▪▪▪▪▪▪▪▪▪▪▪▪▪▪▪▪▪▪▪▪▪▪▪▪▪▪▪▪▪▪▪▪▪▪▪▪▪▪▪▪▪▪▪▪▪▪▪▪▪▪▪▪▪▪▪▪▪▪▪▪▪▪▪▪▪▪▪▪▪▪▪▪▪▪▪▪▪▪▪▪▪	▪▪▪▪▪▪▪▪▪▪▪▪▪▪▪▪▪▪▪▪▪▪▪▪▪▪▪▪▪▪ ▪▪▪▪▪▪▪▪▪▪▪▪▪▪▪▪▪▪▪▪▪▪▪▪▪▪▪▪▪▪ ▪▪▪▪▪▪▪▪▪▪▪▪▪▪▪▪▪▪▪▪▪▪▪▪▪▪▪▪▪▪▪▪▪▪▪▪▪▪▪▪▪▪▪▪▪▪▪▪▪▪▪▪▪▪▪▪▪▪▪▪▪▪▪▪▪▪▪▪▪▪▪▪▪▪▪▪▪▪▪▪▪▪▪▪▪▪▪▪	▪▪▪▪▪▪▪▪▪▪▪▪▪▪▪▪▪▪▪▪▪▪ ▪▪▪▪▪▪▪▪▪▪▪▪▪▪▪▪▪▪▪▪▪▪	▪▪▪▪▪▪▪▪▪▪▪▪▪▪▪▪▪▪▪▪▪▪▪▪▪▪▪▪▪▪▪▪▪▪▪▪▪▪▪▪▪▪▪▪▪▪▪▪▪
▪▪▪▪▪▪▪▪▪▪▪▪▪▪▪▪▪▪▪▪▪▪	▪▪▪▪▪▪▪▪▪▪▪ ▪▪▪▪▪▪▪▪▪▪▪▪▪▪▪▪▪▪▪▪▪▪▪▪▪▪▪▪▪▪▪▪▪▪▪▪▪▪▪▪▪▪▪▪▪▪▪▪▪▪▪▪▪▪▪▪▪▪▪▪▪▪▪▪▪▪▪▪▪▪▪▪▪▪▪▪▪▪▪▪▪▪▪▪▪▪▪▪	▪▪▪▪▪▪▪▪▪▪▪▪▪▪▪▪▪▪▪▪▪▪▪▪▪▪▪▪▪▪ ▪▪▪▪▪▪▪▪▪▪▪▪▪▪▪▪▪▪▪▪▪▪▪▪▪▪▪▪▪▪ ▪▪▪▪▪▪▪▪▪▪▪▪▪▪▪▪▪▪▪▪▪▪▪▪▪▪▪▪▪▪▪▪▪▪▪▪▪▪▪▪▪▪▪▪▪▪▪▪▪▪▪▪▪▪▪▪▪▪▪▪▪▪▪▪▪▪▪▪▪▪▪▪▪▪▪▪▪▪▪▪▪▪▪▪▪▪▪▪	▪▪▪▪▪▪▪▪▪▪▪▪▪▪▪▪▪▪▪▪▪▪ ▪▪▪▪▪▪▪▪▪▪▪▪▪▪▪▪▪▪▪▪▪▪	▪▪▪▪▪▪▪▪▪▪▪▪▪▪▪▪▪▪▪▪▪▪▪▪▪▪▪▪▪▪▪▪▪▪▪▪▪▪▪▪▪▪▪▪▪▪▪▪▪
▪▪▪▪▪▪▪▪▪▪▪▪▪▪▪▪▪▪▪▪▪▪	▪▪▪▪▪▪▪▪▪▪▪ ▪▪▪▪▪▪▪▪▪▪▪▪▪▪▪▪▪▪▪▪▪▪▪▪▪▪▪▪▪▪▪▪▪▪▪▪▪▪▪▪▪▪▪▪▪▪▪▪▪▪▪▪▪▪▪▪▪▪▪▪▪▪▪▪▪▪▪▪▪▪▪▪▪▪▪▪▪▪▪▪▪▪▪▪▪▪▪▪	▪▪▪▪▪▪▪▪▪▪▪▪▪▪▪▪▪▪▪▪▪▪▪▪▪▪▪▪▪▪ ▪▪▪▪▪▪▪▪▪▪▪▪▪▪▪▪▪▪▪▪▪▪▪▪▪▪▪▪▪▪ ▪▪▪▪▪▪▪▪▪▪▪▪▪▪▪▪▪▪▪▪▪▪▪▪▪▪▪▪▪▪▪▪▪▪▪▪▪▪▪▪▪▪▪▪▪▪▪▪▪▪▪▪▪▪▪▪▪▪▪▪▪▪▪▪▪▪▪▪▪▪▪▪▪▪▪▪▪▪▪▪▪▪▪▪▪▪▪▪	▪▪▪▪▪▪▪▪▪▪▪▪▪▪▪▪▪▪▪▪▪▪ ▪▪▪▪▪▪▪▪▪▪▪▪▪▪▪▪▪▪▪▪▪▪	▪▪▪▪▪▪▪▪▪▪▪▪▪▪▪▪▪▪▪▪▪▪▪▪▪▪▪▪▪▪▪▪▪▪▪▪▪▪▪▪▪▪▪▪▪▪▪▪▪
▪▪▪▪▪▪▪▪▪▪▪▪▪▪▪▪▪▪▪▪▪▪	▪▪▪▪▪▪▪▪▪▪▪ ▪▪▪▪▪▪▪▪▪▪▪▪▪▪▪▪▪▪▪▪▪▪▪▪▪▪▪▪▪▪▪▪▪▪▪▪▪▪▪▪▪▪▪▪▪▪▪▪▪▪▪▪▪▪▪▪▪▪▪▪▪▪▪▪▪▪▪▪▪▪▪▪▪▪▪▪▪▪▪▪▪▪▪▪▪▪▪▪	▪▪▪▪▪▪▪▪▪▪▪▪▪▪▪▪▪▪▪▪▪▪▪▪▪▪▪▪▪▪ ▪▪▪▪▪▪▪▪▪▪▪▪▪▪▪▪▪▪▪▪▪▪▪▪▪▪▪▪▪▪ ▪▪▪▪▪▪▪▪▪▪▪▪▪▪▪▪▪▪▪▪▪▪▪▪▪▪▪▪▪▪▪▪▪▪▪▪▪▪▪▪▪▪▪▪▪▪▪▪▪▪▪▪▪▪▪▪▪▪▪▪▪▪▪▪▪▪▪▪▪▪▪▪▪▪▪▪▪▪▪▪▪▪▪▪▪▪▪▪	▪▪▪▪▪▪▪▪▪▪▪▪▪▪▪▪▪▪▪▪▪▪ ▪▪▪▪▪▪▪▪▪▪▪▪▪▪▪▪▪▪▪▪▪▪	▪▪▪▪▪▪▪▪▪▪▪▪▪▪▪▪▪▪▪▪▪▪▪▪▪▪▪▪▪▪▪▪▪▪▪▪▪▪▪▪▪▪▪▪▪▪▪▪▪
▪▪▪▪▪▪▪▪▪▪▪▪▪▪▪▪▪▪▪▪▪▪	▪▪▪▪▪▪▪▪▪▪▪ ▪▪▪▪▪▪▪▪▪▪▪▪▪▪▪▪▪▪▪▪▪▪▪▪▪▪▪▪▪▪▪▪▪▪▪▪▪▪▪▪▪▪▪▪▪▪▪▪▪▪▪▪▪▪▪▪▪▪▪▪▪▪▪▪▪▪▪▪▪▪▪▪▪▪▪▪▪▪▪▪▪▪▪▪▪▪▪▪	▪▪▪▪▪▪▪▪▪▪▪▪▪▪▪▪▪▪▪▪▪▪▪▪▪▪▪▪▪▪ ▪▪▪▪▪▪▪▪▪▪▪▪▪▪▪▪▪▪▪▪▪▪▪▪▪▪▪▪▪▪ ▪▪▪▪▪▪▪▪▪▪▪▪▪▪▪▪▪▪▪▪▪▪▪▪▪▪▪▪▪▪▪▪▪▪▪▪▪▪▪▪▪▪▪▪▪▪▪▪▪▪▪▪▪▪▪▪▪▪▪▪▪▪▪▪▪▪▪▪▪▪▪▪▪▪▪▪▪▪▪▪▪▪▪▪▪▪▪▪	▪▪▪▪▪▪▪▪▪▪▪▪▪▪▪▪▪▪▪▪▪▪ ▪▪▪▪▪▪▪▪▪▪▪▪▪▪▪▪▪▪▪▪▪▪	▪▪▪▪▪▪▪▪▪▪▪▪▪▪▪▪▪▪▪▪▪▪▪▪▪▪▪▪▪▪▪▪▪▪▪▪▪▪▪▪▪▪▪▪▪▪▪▪▪
▪▪▪▪▪▪▪▪▪▪▪▪▪▪▪▪▪▪▪▪▪▪	▪▪▪▪▪▪▪▪▪▪▪ ▪▪▪▪▪▪▪▪▪▪▪▪▪▪▪▪▪▪▪▪▪▪▪▪▪▪▪▪▪▪▪▪▪▪▪▪▪▪▪▪▪▪▪▪▪▪▪▪▪▪▪▪▪▪▪▪▪▪▪▪▪▪▪▪▪▪▪▪▪▪▪▪▪▪▪▪▪▪▪▪▪▪▪▪▪▪▪▪	▪▪▪▪▪▪▪▪▪▪▪▪▪▪▪▪▪▪▪▪▪▪▪▪▪▪▪▪▪▪ ▪▪▪▪▪▪▪▪▪▪▪▪▪▪▪▪▪▪▪▪▪▪▪▪▪▪▪▪▪▪ ▪▪▪▪▪▪▪▪▪▪▪▪▪▪▪▪▪▪▪▪▪▪▪▪▪▪▪▪▪▪▪▪▪▪▪▪▪▪▪▪▪▪▪▪▪▪▪▪▪▪▪▪▪▪▪▪▪▪▪▪▪▪▪▪▪▪▪▪▪▪▪▪▪▪▪▪▪▪▪▪▪▪▪▪▪▪▪▪	▪▪▪▪▪▪▪▪▪▪▪▪▪▪▪▪▪▪▪▪▪▪ ▪▪▪▪▪▪▪▪▪▪▪▪▪▪▪▪▪▪▪▪▪▪	▪▪▪▪▪▪▪▪▪▪▪▪▪▪▪▪▪▪▪▪▪▪▪▪▪▪▪▪▪▪▪▪▪▪▪▪▪▪▪▪▪▪▪▪▪▪▪▪▪
▪▪▪▪▪▪▪▪▪▪▪▪▪▪▪▪▪▪▪▪▪▪	▪▪▪▪▪▪▪▪▪▪▪ ▪▪▪▪▪▪▪▪▪▪▪▪▪▪▪▪▪▪▪▪▪▪▪▪▪▪▪▪▪▪▪▪▪▪▪▪▪▪▪▪▪▪▪▪▪▪▪▪▪▪▪▪▪▪▪▪▪▪▪▪▪▪▪▪▪▪▪▪▪▪▪▪▪▪▪▪▪▪▪▪▪▪▪▪▪▪▪▪	▪▪▪▪▪▪▪▪▪▪▪▪▪▪▪▪▪▪▪▪▪▪▪▪▪▪▪▪▪▪ ▪▪▪▪▪▪▪▪▪▪▪▪▪▪▪▪▪▪▪▪▪▪▪▪▪▪▪▪▪▪ ▪▪▪▪▪▪▪▪▪▪▪▪▪▪▪▪▪▪▪▪▪▪▪▪▪▪▪▪▪▪▪▪▪▪▪▪▪▪▪▪▪▪▪▪▪▪▪▪▪▪▪▪▪▪▪▪▪▪▪▪▪▪▪▪▪▪▪▪▪▪▪▪▪▪▪▪▪▪▪▪▪▪▪▪▪▪▪▪	▪▪▪▪▪▪▪▪▪▪▪▪▪▪▪▪▪▪▪▪▪▪ ▪▪▪▪▪▪▪▪▪▪▪▪▪▪▪▪▪▪▪▪▪▪	▪▪▪▪▪▪▪▪▪▪▪▪▪▪▪▪▪▪▪▪▪▪▪▪▪▪▪▪▪▪▪▪▪▪▪▪▪▪▪▪▪▪▪▪▪▪▪▪▪
▪▪▪▪▪▪▪▪▪▪▪▪▪▪▪▪▪▪▪▪▪▪	▪▪▪▪▪▪▪▪▪▪▪ ▪▪▪▪▪▪▪▪▪▪▪▪▪▪▪▪▪▪▪▪▪▪▪▪▪▪▪▪▪▪▪▪▪▪▪▪▪▪▪▪▪▪▪▪▪▪▪▪▪▪▪▪▪▪▪▪▪▪▪▪▪▪▪▪▪▪▪▪▪▪▪▪▪▪▪▪▪▪▪▪▪▪▪▪▪▪▪▪	▪▪▪▪▪▪▪▪▪▪▪▪▪▪▪▪▪▪▪▪▪▪▪▪▪▪▪▪▪▪ ▪▪▪▪▪▪▪▪▪▪▪▪▪▪▪▪▪▪▪▪▪▪▪▪▪▪▪▪▪▪ ▪▪▪▪▪▪▪▪▪▪▪▪▪▪▪▪▪▪▪▪▪▪▪▪▪▪▪▪▪▪▪▪▪▪▪▪▪▪▪▪▪▪▪▪▪▪▪▪▪▪▪▪▪▪▪▪▪▪▪▪▪▪▪▪▪▪▪▪▪▪▪▪▪▪▪▪▪▪▪▪▪▪▪▪▪▪▪▪	▪▪▪▪▪▪▪▪▪▪▪▪▪▪▪▪▪▪▪▪▪▪ ▪▪▪▪▪▪▪▪▪▪▪▪▪▪▪▪▪▪▪▪▪▪	▪▪▪▪▪▪▪▪▪▪▪▪▪▪▪▪▪▪▪▪▪▪▪▪▪▪▪▪▪▪▪▪▪▪▪▪▪▪▪▪▪▪▪▪▪▪▪▪▪
▪▪▪▪▪▪▪▪▪▪▪▪▪▪▪▪▪▪▪▪▪▪	▪▪▪▪▪▪▪▪▪▪▪ ▪▪▪▪▪▪▪▪▪▪▪▪▪▪▪▪▪▪▪▪▪▪▪▪▪▪▪▪▪▪▪▪▪▪▪▪▪▪▪▪▪▪▪▪▪▪▪▪▪▪▪▪▪▪▪▪▪▪▪▪▪▪▪▪▪▪▪▪▪▪▪▪▪▪▪▪▪▪▪▪▪▪▪▪▪▪▪▪	▪▪▪▪▪▪▪▪▪▪▪▪▪▪▪▪▪▪▪▪▪▪▪▪▪▪▪▪▪▪ ▪▪▪▪▪▪▪▪▪▪▪▪▪▪▪▪▪▪▪▪▪▪▪▪▪▪▪▪▪▪ ▪▪▪▪▪▪▪▪▪▪▪▪▪▪▪▪▪▪▪▪▪▪▪▪▪▪▪▪▪▪▪▪▪▪▪▪▪▪▪▪▪▪▪▪▪▪▪▪▪▪▪▪▪▪▪▪▪▪▪▪▪▪▪▪▪▪▪▪▪▪▪▪▪▪▪▪▪▪▪▪▪▪▪▪▪▪▪▪	▪▪▪▪▪▪▪▪▪▪▪▪▪▪▪▪▪▪▪▪▪▪ ▪▪▪▪▪▪▪▪▪▪▪▪▪▪▪▪▪▪▪▪▪▪	▪▪▪▪▪▪▪▪▪▪▪▪▪▪▪▪▪▪▪▪▪▪▪▪▪▪▪▪▪▪▪▪▪▪▪▪▪▪▪▪▪▪▪▪▪▪▪▪▪
▪▪▪▪▪▪▪▪▪▪▪▪▪▪▪▪▪▪▪▪▪▪	▪▪▪▪▪▪▪▪▪▪▪ ▪▪▪▪▪▪▪▪▪▪▪▪▪▪▪▪▪▪▪▪▪▪▪▪▪▪▪▪▪▪▪▪▪▪▪▪▪▪▪▪▪▪▪▪▪▪▪▪▪▪▪▪▪▪▪▪▪▪▪▪▪▪▪▪▪▪▪▪▪▪▪▪▪▪▪▪▪▪▪▪▪▪▪▪▪▪▪▪	▪▪▪▪▪▪▪▪▪▪▪▪▪▪▪▪▪▪▪▪▪▪▪▪▪▪▪▪▪▪ ▪▪▪▪▪▪▪▪▪▪▪▪▪▪▪▪▪▪▪▪▪▪▪▪▪▪▪▪▪▪ ▪▪▪▪▪▪▪▪▪▪▪▪▪▪▪▪▪▪▪▪▪▪▪▪▪▪▪▪▪▪▪▪▪▪▪▪▪▪▪▪▪▪▪▪▪▪▪▪▪▪▪▪▪▪▪▪▪▪▪▪▪▪▪▪▪▪▪▪▪▪▪▪▪▪▪▪▪▪▪▪▪▪▪▪▪▪▪▪	▪▪▪▪▪▪▪▪▪▪▪▪▪▪▪▪▪▪▪▪▪▪ ▪▪▪▪▪▪▪▪▪▪▪▪▪▪▪▪▪▪▪▪▪▪	▪▪▪▪▪▪▪▪▪▪▪▪▪▪▪▪▪▪▪▪▪▪▪▪▪▪▪▪▪▪▪▪▪▪▪▪▪▪▪▪▪▪▪▪▪▪▪▪▪
▪▪▪▪▪▪▪▪▪▪▪▪▪▪▪▪▪▪▪▪▪▪	▪▪▪▪▪▪▪▪▪▪▪ ▪▪▪▪▪▪▪▪▪▪▪▪▪▪▪▪▪▪▪▪▪▪▪▪▪▪▪▪▪▪▪▪▪▪▪▪▪▪▪▪▪▪▪▪▪▪▪▪▪▪▪▪▪▪▪▪▪▪▪▪▪▪▪▪▪▪▪▪▪▪▪▪▪▪▪▪▪▪▪▪▪▪▪▪▪▪▪▪	▪▪▪▪▪▪▪▪▪▪▪▪▪▪▪▪▪▪▪▪▪▪▪▪▪▪▪▪▪▪ ▪▪▪▪▪▪▪▪▪▪▪▪▪▪▪▪▪▪▪▪▪▪▪▪▪▪▪▪▪▪ ▪▪▪▪▪▪▪▪▪▪▪▪▪▪▪▪▪▪▪▪▪▪▪▪▪▪▪▪▪▪▪▪▪▪▪▪▪▪▪▪▪▪▪▪▪▪▪▪▪▪▪▪▪▪▪▪▪▪▪▪▪▪▪▪▪▪▪▪▪▪▪▪▪▪▪▪▪▪▪▪▪▪▪▪▪▪▪▪	▪▪▪▪▪▪▪▪▪▪▪▪▪▪▪▪▪▪▪▪▪▪ ▪▪▪▪▪▪▪▪▪▪▪▪▪▪▪▪▪▪▪▪▪▪	▪▪▪▪▪▪▪▪▪▪▪▪▪▪▪▪▪▪▪▪▪▪▪▪▪▪▪▪▪▪▪▪▪▪▪▪▪▪▪▪▪▪▪▪▪▪▪▪▪
▪▪▪▪▪▪▪▪▪▪▪▪▪▪▪▪▪▪▪▪▪▪	▪▪▪▪▪▪▪▪▪▪▪ ▪▪▪▪▪▪▪▪▪▪▪▪▪▪▪▪▪▪▪▪▪▪▪▪▪▪▪▪▪▪▪▪▪▪▪▪▪▪▪▪▪▪▪▪▪▪▪▪▪▪▪▪▪▪▪▪▪▪▪▪▪▪▪▪▪▪▪▪▪▪▪▪▪▪▪▪▪▪▪▪▪▪▪▪▪▪▪▪	▪▪▪▪▪▪▪▪▪▪▪▪▪▪▪▪▪▪▪▪▪▪▪▪▪▪▪▪▪▪ ▪▪▪▪▪▪▪▪▪▪▪▪▪▪▪▪▪▪▪▪▪▪▪▪▪▪▪▪▪▪ ▪▪▪▪▪▪▪▪▪▪▪▪▪▪▪▪▪▪▪▪▪▪▪▪▪▪▪▪▪▪▪▪▪▪▪▪▪▪▪▪▪▪▪▪▪▪▪▪▪▪▪▪▪▪▪▪▪▪▪▪▪▪▪▪▪▪▪▪▪▪▪▪▪▪▪▪▪▪▪▪▪▪▪▪▪▪▪▪	▪▪▪▪▪▪▪▪▪▪▪▪▪▪▪▪▪▪▪▪▪▪ ▪▪▪▪▪▪▪▪▪▪▪▪▪▪▪▪▪▪▪▪▪▪	▪▪▪▪▪▪▪▪▪▪▪▪▪▪▪▪▪▪▪▪▪▪▪▪▪▪▪▪▪▪▪▪▪▪▪▪▪▪▪▪▪▪▪▪▪▪▪▪▪
▪▪▪▪▪▪▪▪▪▪▪▪▪▪▪▪▪▪▪▪▪▪	▪▪▪▪▪▪▪▪▪▪▪ ▪▪▪▪▪▪▪▪▪▪▪▪▪▪▪▪▪▪▪▪▪▪▪▪▪▪▪▪▪▪▪▪▪▪▪▪▪▪▪▪▪▪▪▪▪▪▪▪▪▪▪▪▪▪▪▪▪▪▪▪▪▪▪▪▪▪▪▪▪▪▪▪▪▪▪▪▪▪▪▪▪▪▪▪▪▪▪▪	▪▪▪▪▪▪▪▪▪▪▪▪▪▪▪▪▪▪▪▪▪▪▪▪▪▪▪▪▪▪ ▪▪▪▪▪▪▪▪▪▪▪▪▪▪▪▪▪▪▪▪▪▪▪▪▪▪▪▪▪▪ ▪▪▪▪▪▪▪▪▪▪▪▪▪▪▪▪▪▪▪▪▪▪▪▪▪▪▪▪▪▪▪▪▪▪▪▪▪▪▪▪▪▪▪▪▪▪▪▪▪▪▪▪▪▪▪▪▪▪▪▪▪▪▪▪▪▪▪▪▪▪▪▪▪▪▪▪▪▪▪▪▪▪▪▪▪▪▪▪	▪▪▪▪▪▪▪▪▪▪▪▪▪▪▪▪▪▪▪▪▪▪ ▪▪▪▪▪▪▪▪▪▪▪▪▪▪▪▪▪▪▪▪▪▪	▪▪▪▪▪▪▪▪▪▪▪▪▪▪▪▪▪▪▪▪▪▪▪▪▪▪▪▪▪▪▪▪▪▪▪▪▪▪▪▪▪▪▪▪▪▪▪▪▪
▪▪▪▪▪▪▪▪▪▪▪▪▪▪▪▪▪▪▪▪▪▪	▪▪▪▪▪▪▪▪▪▪▪ ▪▪▪▪▪▪▪▪▪▪▪▪▪▪▪▪▪▪▪▪▪▪▪▪▪▪▪▪▪▪▪▪▪▪▪▪▪▪▪▪▪▪▪▪▪▪▪▪▪▪▪▪▪▪▪▪▪▪▪▪▪▪▪▪▪▪▪▪▪▪▪▪▪▪▪▪▪▪▪▪▪▪▪▪▪▪▪▪	▪▪▪▪▪▪▪▪▪▪▪▪▪▪▪▪▪▪▪▪▪▪▪▪▪▪▪▪▪▪ ▪▪▪▪▪▪▪▪▪▪▪▪▪▪▪▪▪▪▪▪▪▪▪▪▪▪▪▪▪▪ ▪▪▪▪▪▪▪▪▪▪▪▪▪▪▪▪▪▪▪▪▪▪▪▪▪▪▪▪▪▪▪▪▪▪▪▪▪▪▪▪▪▪▪▪▪▪▪▪▪▪▪▪▪▪▪▪▪▪▪▪▪▪▪▪▪▪▪▪▪▪▪▪▪▪▪▪▪▪▪▪▪▪▪▪▪▪▪▪	▪▪▪▪▪▪▪▪▪▪▪▪▪▪▪▪▪▪▪▪▪▪ ▪▪▪▪▪▪▪▪▪▪▪▪▪▪▪▪▪▪▪▪▪▪	▪▪▪▪▪▪▪▪▪▪▪▪▪▪▪▪▪▪▪▪▪▪▪▪▪▪▪▪▪▪▪▪▪▪▪▪▪▪▪▪▪▪▪▪▪▪▪▪▪
▪▪▪▪▪▪▪▪▪▪▪▪▪▪▪▪▪▪▪▪▪▪	▪▪▪▪▪▪▪▪▪▪▪ ▪▪▪▪▪▪▪▪▪▪▪▪▪▪▪▪▪▪▪▪▪▪▪▪▪▪▪▪▪▪▪▪▪▪▪▪▪▪▪▪▪▪▪▪▪▪▪▪▪▪▪▪▪▪▪▪▪▪▪▪▪▪▪▪▪▪▪▪▪▪▪▪▪▪▪▪▪▪▪▪▪▪▪▪▪▪▪▪	▪▪▪▪▪▪▪▪▪▪▪▪▪▪▪▪▪▪▪▪▪▪▪▪▪▪▪▪▪▪ ▪▪▪▪▪▪▪▪▪▪▪▪▪▪▪▪▪▪▪▪▪▪▪▪▪▪▪▪▪▪ ▪▪▪▪▪▪▪▪▪▪▪▪▪▪▪▪▪▪▪▪▪▪▪▪▪▪▪▪▪▪▪▪▪▪▪▪▪▪▪▪▪▪▪▪▪▪▪▪▪▪▪▪▪▪▪▪▪▪▪▪▪▪▪▪▪▪▪▪▪▪▪▪▪▪▪▪▪▪▪▪▪▪▪▪▪▪▪▪	▪▪▪▪▪▪▪▪▪▪▪▪▪▪▪▪▪▪▪▪▪▪ ▪▪▪▪▪▪▪▪▪▪▪▪▪▪▪▪▪▪▪▪▪▪	▪▪▪▪▪▪▪▪▪▪▪▪▪▪▪▪▪▪▪▪▪▪▪▪▪▪▪▪▪▪▪▪▪▪▪▪▪▪▪▪▪▪▪▪▪▪▪▪▪
▪▪▪▪▪▪▪▪▪▪▪▪▪▪▪▪▪▪▪▪▪▪	▪▪▪▪▪▪▪▪▪▪▪ ▪▪▪▪▪▪▪▪▪▪▪▪▪▪▪▪▪▪▪▪▪▪▪▪▪▪▪▪▪▪▪▪▪▪▪▪▪▪▪▪▪▪▪▪▪▪▪▪▪▪▪▪▪▪▪▪▪▪▪▪▪▪▪▪▪▪▪▪▪▪▪▪▪▪▪▪▪▪▪▪▪▪▪▪▪▪▪▪	▪▪▪▪▪▪▪▪▪▪▪▪▪▪▪▪▪▪▪▪▪▪▪▪▪▪▪▪▪▪ ▪▪▪▪▪▪▪▪▪▪▪▪▪▪▪▪▪▪▪▪▪▪▪▪▪▪▪▪▪▪ ▪▪▪▪▪▪▪▪▪▪▪▪▪▪▪▪▪▪▪▪▪▪▪▪▪▪▪▪▪▪▪▪▪▪▪▪▪▪▪▪▪▪▪▪▪▪▪▪▪▪▪▪▪▪▪▪▪▪▪▪▪▪▪▪▪▪▪▪▪▪▪▪▪▪▪▪▪▪▪▪▪▪▪▪▪▪▪▪	▪▪▪▪▪▪▪▪▪▪▪▪▪▪▪▪▪▪▪▪▪▪ ▪▪▪▪▪▪▪▪▪▪▪▪▪▪▪▪▪▪▪▪▪▪	▪▪▪▪▪▪▪▪▪▪▪▪▪▪▪▪▪▪▪▪▪▪▪▪▪▪▪▪▪▪▪▪▪▪▪▪▪▪▪▪▪▪▪▪▪▪▪▪▪
▪▪▪▪▪▪▪▪▪▪▪▪▪▪▪▪▪▪▪▪▪▪	▪▪▪▪▪▪▪▪▪▪▪ ▪▪▪▪▪▪▪▪▪▪▪▪▪▪▪▪▪▪▪▪▪▪▪▪▪▪▪▪▪▪▪▪▪▪▪▪▪▪▪▪▪▪▪▪▪▪▪▪▪▪▪▪▪▪▪▪▪▪▪▪▪▪▪▪▪▪▪▪▪▪▪▪▪▪▪▪▪▪▪▪▪▪▪▪▪▪▪▪	▪▪▪▪▪▪▪▪▪▪▪▪▪▪▪▪▪▪▪▪▪▪▪▪▪▪▪▪▪▪ ▪▪▪▪▪▪▪▪▪▪▪▪▪▪▪▪▪▪▪▪▪▪▪▪▪▪▪▪▪▪ ▪▪▪▪▪▪▪▪▪▪▪▪▪▪▪▪▪▪▪▪▪▪▪▪▪▪▪▪▪▪▪▪▪▪▪▪▪▪▪▪▪▪▪▪▪▪▪▪▪▪▪▪▪▪▪▪▪▪▪▪▪▪▪▪▪▪▪▪▪▪▪▪▪▪▪▪▪▪▪▪▪▪▪▪▪▪▪▪	▪▪▪▪▪▪▪▪▪▪▪▪▪▪▪▪▪▪▪▪▪▪ ▪▪▪▪▪▪▪▪▪▪▪▪▪▪▪▪▪▪▪▪▪▪	▪▪▪▪▪▪▪▪▪▪▪▪▪▪▪▪▪▪▪▪▪▪▪▪▪▪▪▪▪▪▪▪▪▪▪▪▪▪▪▪▪▪▪▪▪▪▪▪▪
▪▪▪▪▪▪▪▪▪▪▪▪▪▪▪▪▪▪▪▪▪▪	▪▪▪▪▪▪▪▪▪▪▪ ▪▪▪▪▪▪▪▪▪▪▪▪▪▪▪▪▪▪▪▪▪▪▪▪▪▪▪▪▪▪▪▪▪▪▪▪▪▪▪▪▪▪▪▪▪▪▪▪▪▪▪▪▪▪▪▪▪▪▪▪▪▪▪▪▪▪▪▪▪▪▪▪▪▪▪▪▪▪▪▪▪▪▪▪▪▪▪▪	▪▪▪▪▪▪▪▪▪▪▪▪▪▪▪▪▪▪▪▪▪▪▪▪▪▪▪▪▪▪ ▪▪▪▪▪▪▪▪▪▪▪▪▪▪▪▪▪▪▪▪▪▪▪▪▪▪▪▪▪▪ ▪▪▪▪▪▪▪▪▪▪▪▪▪▪▪▪▪▪▪▪▪▪▪▪▪▪▪▪▪▪▪▪▪▪▪▪▪▪▪▪▪▪▪▪▪▪▪▪▪▪▪▪▪▪▪▪▪▪▪▪▪▪▪▪▪▪▪▪▪▪▪▪▪▪▪▪▪▪▪▪▪▪▪▪▪▪▪▪	▪▪▪▪▪▪▪▪▪▪▪▪▪▪▪▪▪▪▪▪▪▪ ▪▪▪▪▪▪▪▪▪▪▪▪▪▪▪▪▪▪▪▪▪▪	▪▪▪▪▪▪▪▪▪▪▪▪▪▪▪▪▪▪▪▪▪▪▪▪▪▪▪▪▪▪▪▪▪▪▪▪▪▪▪▪▪▪▪▪▪▪▪▪▪
▪▪▪▪▪▪▪▪▪▪▪▪▪▪▪▪▪▪▪▪▪▪	▪▪▪▪▪▪▪▪▪▪▪ ▪▪▪▪▪▪▪▪▪▪▪▪▪▪▪▪▪▪▪▪▪▪▪▪▪▪▪▪▪▪▪▪▪▪▪▪▪▪▪▪▪▪▪▪▪▪▪▪▪▪▪▪▪▪▪▪▪▪▪▪▪▪▪▪▪▪▪▪▪▪▪▪▪▪▪▪▪▪▪▪▪▪▪▪▪▪▪▪	▪▪▪▪▪▪▪▪▪▪▪▪▪▪▪▪▪▪▪▪▪▪▪▪▪▪▪▪▪▪ ▪▪▪▪▪▪▪▪▪▪▪▪▪▪▪▪▪▪▪▪▪▪▪▪▪▪▪▪▪▪ ▪▪▪▪▪▪▪▪▪▪▪▪▪▪▪▪▪▪▪▪▪▪▪▪▪▪▪▪▪▪▪▪▪▪▪▪▪▪▪▪▪▪▪▪▪▪▪▪▪▪▪▪▪▪▪▪▪▪▪▪▪▪▪▪▪▪▪▪▪▪▪▪▪▪▪▪▪▪▪▪▪▪▪▪▪▪▪▪	▪▪▪▪▪▪▪▪▪▪▪▪▪▪▪▪▪▪▪▪▪▪ ▪▪▪▪▪▪▪▪▪▪▪▪▪▪▪▪▪▪▪▪▪▪	▪▪▪▪▪▪▪▪▪▪▪▪▪▪▪▪▪▪▪▪▪▪▪▪▪▪▪▪▪▪▪▪▪▪▪▪▪▪▪▪▪▪▪▪▪▪▪▪▪
▪▪▪▪▪▪▪▪▪▪▪▪▪▪▪▪▪▪▪▪▪▪	▪▪▪▪▪▪▪▪▪▪▪ ▪▪▪▪▪▪▪▪▪▪▪▪▪▪▪▪▪▪▪▪▪▪▪▪▪▪▪▪▪▪▪▪▪▪▪▪▪▪▪▪▪▪▪▪▪▪▪▪▪▪▪▪▪▪▪▪▪▪▪▪▪▪▪▪▪▪▪▪▪▪▪▪▪▪▪▪▪▪▪▪▪▪▪▪▪▪▪▪	▪▪▪▪▪▪▪▪▪▪▪▪▪▪▪▪▪▪▪▪▪▪▪▪▪▪▪▪▪▪ ▪▪▪▪▪▪▪▪▪▪▪▪▪▪▪▪▪▪▪▪▪▪▪▪▪▪▪▪▪▪ ▪▪▪▪▪▪▪▪▪▪▪▪▪▪▪▪▪▪▪▪▪▪▪▪▪▪▪▪▪▪▪▪▪▪▪▪▪▪▪▪▪▪▪▪▪▪▪▪▪▪▪▪▪▪▪▪▪▪▪▪▪▪▪▪▪▪▪▪▪▪▪▪▪▪▪▪▪▪▪▪▪▪▪▪▪▪▪▪	▪▪▪▪▪▪▪▪▪▪▪▪▪▪▪▪▪▪▪▪▪▪ ▪▪▪▪▪▪▪▪▪▪▪▪▪▪▪▪▪▪▪▪▪▪	▪▪▪▪▪▪▪▪▪▪▪▪▪▪▪▪▪▪▪▪▪▪▪▪▪▪▪▪▪▪▪▪▪▪▪▪▪▪▪▪▪▪▪▪▪▪▪▪▪
▪▪▪▪▪▪▪▪▪▪▪▪▪▪▪▪▪▪▪▪▪▪	▪▪▪▪▪▪▪▪▪▪▪ ▪▪▪▪▪▪▪▪▪▪▪▪▪▪▪▪▪▪▪▪▪▪▪▪▪▪▪▪▪▪▪▪▪▪▪▪▪▪▪▪▪▪▪▪▪▪▪▪▪▪▪▪▪▪▪▪▪▪▪▪▪▪▪▪▪▪▪▪▪▪▪▪▪▪▪▪▪▪▪▪▪▪▪▪▪▪▪▪	▪▪▪▪▪▪▪▪▪▪▪▪▪▪▪▪▪▪▪▪▪▪▪▪▪▪▪▪▪▪ ▪▪▪▪▪▪▪▪▪▪▪▪▪▪▪▪▪▪▪▪▪▪▪▪▪▪▪▪▪▪ ▪▪▪▪▪▪▪▪▪▪▪▪▪▪▪▪▪▪▪▪▪▪▪▪▪▪▪▪▪▪▪▪▪▪▪▪▪▪▪▪▪▪▪▪▪▪▪▪▪▪▪▪▪▪▪▪▪▪▪▪▪▪▪▪▪▪▪▪▪▪▪▪▪▪▪▪▪▪▪▪▪▪▪▪▪▪▪▪	▪▪▪▪▪▪▪▪▪▪▪▪▪▪▪▪▪▪▪▪▪▪ ▪▪▪▪▪▪▪▪▪▪▪▪▪▪▪▪▪▪▪▪▪▪	▪▪▪▪▪▪▪▪▪▪▪▪▪▪▪▪▪▪▪▪▪▪▪▪▪▪▪▪▪▪▪▪▪▪▪▪▪▪▪▪▪▪▪▪▪▪▪▪▪
▪▪▪▪▪▪▪▪▪▪▪▪▪▪▪▪▪▪▪▪▪▪	▪▪▪▪▪▪▪▪▪▪▪ ▪▪▪▪▪▪▪▪▪▪▪▪▪▪▪▪▪▪▪▪▪▪▪▪▪▪▪▪▪▪▪▪▪▪▪▪▪▪▪▪▪▪▪▪▪▪▪▪▪▪▪▪▪▪▪▪▪▪▪▪▪▪▪▪▪▪▪▪▪▪▪▪▪▪▪▪▪▪▪▪▪▪▪▪▪▪▪▪	▪▪▪▪▪▪▪▪▪▪▪▪▪▪▪▪▪▪▪▪▪▪▪▪▪▪▪▪▪▪ ▪▪▪▪▪▪▪▪▪▪▪▪▪▪▪▪▪▪▪▪▪▪▪▪▪▪▪▪▪▪ ▪▪▪▪▪▪▪▪▪▪▪▪▪▪▪▪▪▪▪▪▪▪▪▪▪▪▪▪▪▪▪▪▪▪▪▪▪▪▪▪▪▪▪▪▪▪▪▪▪▪▪▪▪▪▪▪▪▪▪▪▪▪▪▪▪▪▪▪▪▪▪▪▪▪▪▪▪▪▪▪▪▪▪▪▪▪▪▪	▪▪▪▪▪▪▪▪▪▪▪▪▪▪▪▪▪▪▪▪▪▪ ▪▪▪▪▪▪▪▪▪▪▪▪▪▪▪▪▪▪▪▪▪▪	▪▪▪▪▪▪▪▪▪▪▪▪▪▪▪▪▪▪▪▪▪▪▪▪▪▪▪▪▪▪▪▪▪▪▪▪▪▪▪▪▪▪▪▪▪▪▪▪▪
▪▪▪▪▪▪▪▪▪▪▪▪▪▪▪▪▪▪▪▪▪▪	▪▪▪▪▪▪▪▪▪▪▪ ▪▪▪▪▪▪▪▪▪▪▪▪▪▪▪▪▪▪▪▪▪▪▪▪▪▪▪▪▪▪▪▪▪▪▪▪▪▪▪▪▪▪▪▪▪▪▪▪▪▪▪▪▪▪▪▪▪▪▪▪▪▪▪▪▪▪▪▪▪▪▪▪▪▪▪▪▪▪▪▪▪▪▪▪▪▪▪▪	▪▪▪▪▪▪▪▪▪▪▪▪▪▪▪▪▪▪▪▪▪▪▪▪▪▪▪▪▪▪ ▪▪▪▪▪▪▪▪▪▪▪▪▪▪▪▪▪▪▪▪▪▪▪▪▪▪▪▪▪▪ ▪▪▪▪▪▪▪▪▪▪▪▪▪▪▪▪▪▪▪▪▪▪▪▪▪▪▪▪▪▪▪▪▪▪▪▪▪▪▪▪▪▪▪▪▪▪▪▪▪▪▪▪▪▪▪▪▪▪▪▪▪▪▪▪▪▪▪▪▪▪▪▪▪▪▪▪▪▪▪▪▪▪▪▪▪▪▪▪	▪▪▪▪▪▪▪▪▪▪▪▪▪▪▪▪▪▪▪▪▪▪ ▪▪▪▪▪▪▪▪▪▪▪▪▪▪▪▪▪▪▪▪▪▪	▪▪▪▪▪▪▪▪▪▪▪▪▪▪▪▪▪▪▪▪▪▪▪▪▪▪▪▪▪▪▪▪▪▪▪▪▪▪▪▪▪▪▪▪▪▪▪▪▪
▪▪▪▪▪▪▪▪▪▪▪▪▪▪▪▪▪▪▪▪▪▪	▪▪▪▪▪▪▪▪▪▪▪ ▪▪▪▪▪▪▪▪▪▪▪▪▪▪▪▪▪▪▪▪▪▪▪▪▪▪▪▪▪▪▪▪▪▪▪▪▪▪▪▪▪▪▪▪▪▪▪▪▪▪▪▪▪▪▪▪▪▪▪▪▪▪▪▪▪▪▪▪▪▪▪▪▪▪▪▪▪▪▪▪▪▪▪▪▪▪▪▪	▪▪▪▪▪▪▪▪▪▪▪▪▪▪▪▪▪▪▪▪▪▪▪▪▪▪▪▪▪▪ ▪▪▪▪▪▪▪▪▪▪▪▪▪▪▪▪▪▪▪▪▪▪▪▪▪▪▪▪▪▪ ▪▪▪▪▪▪▪▪▪▪▪▪▪▪▪▪▪▪▪▪▪▪▪▪▪▪▪▪▪▪▪▪▪▪▪▪▪▪▪▪▪▪▪▪▪▪▪▪▪▪▪▪▪▪▪▪▪▪▪▪▪▪▪▪▪▪▪▪▪▪▪▪▪▪▪▪▪▪▪▪▪▪▪▪▪▪▪▪	▪▪▪▪▪▪▪▪▪▪▪▪▪▪▪▪▪▪▪▪▪▪ ▪▪▪▪▪▪▪▪▪▪▪▪▪▪▪▪▪▪▪▪▪▪	▪▪▪▪▪▪▪▪▪▪▪▪▪▪▪▪▪▪▪▪▪▪▪▪▪▪▪▪▪▪▪▪▪▪▪▪▪▪▪▪▪▪▪▪▪▪▪▪▪
▪▪▪▪▪▪▪▪▪▪▪▪▪▪▪▪▪▪▪▪▪▪	▪▪▪▪▪▪▪▪▪▪▪ ▪▪▪▪▪▪▪▪▪▪▪▪▪▪▪▪▪▪▪▪▪▪▪▪▪▪▪▪▪▪▪▪▪▪▪▪▪▪▪▪▪▪▪▪▪▪▪▪▪▪▪▪▪▪▪▪▪▪▪▪▪▪▪▪▪▪▪▪▪▪▪▪▪▪▪▪▪▪▪▪▪▪▪▪▪▪▪▪	▪▪▪▪▪▪▪▪▪▪▪▪▪▪▪▪▪▪▪▪▪▪▪▪▪▪▪▪▪▪ ▪▪▪▪▪▪▪▪▪▪▪▪▪▪▪▪▪▪▪▪▪▪▪▪▪▪▪▪▪▪ ▪▪▪▪▪▪▪▪▪▪▪▪▪▪▪▪▪▪▪▪▪▪▪▪▪▪▪▪▪▪▪▪▪▪▪▪▪▪▪▪▪▪▪▪▪▪▪▪▪▪▪▪▪▪▪▪▪▪▪▪▪▪▪▪▪▪▪▪▪▪▪▪▪▪▪▪▪▪▪▪▪▪▪▪▪▪▪▪	▪▪▪▪▪▪▪▪▪▪▪▪▪▪▪▪▪▪▪▪▪▪ ▪▪▪▪▪▪▪▪▪▪▪▪▪▪▪▪▪▪▪▪▪▪	▪▪▪▪▪▪▪▪▪▪▪▪▪▪▪▪▪▪▪▪▪▪▪▪▪▪▪▪▪▪▪▪▪▪▪▪▪▪▪▪▪▪▪▪▪▪▪▪▪
▪▪▪▪▪▪▪▪▪▪▪▪▪▪▪▪▪▪▪▪▪▪	▪▪▪▪▪▪▪▪▪▪▪ ▪▪▪▪▪▪▪▪▪▪▪▪▪▪▪▪▪▪▪▪▪▪▪▪▪▪▪▪▪▪▪▪▪▪▪▪▪▪▪▪▪▪▪▪▪▪▪▪▪▪▪▪▪▪▪▪▪▪▪▪▪▪▪▪▪▪▪▪▪▪▪▪▪▪▪▪▪▪▪▪▪▪▪▪▪▪▪▪	▪▪▪▪▪▪▪▪▪▪▪▪▪▪▪▪▪▪▪▪▪▪▪▪▪▪▪▪▪▪ ▪▪▪▪▪▪▪▪▪▪▪▪▪▪▪▪▪▪▪▪▪▪▪▪▪▪▪▪▪▪ ▪▪▪▪▪▪▪▪▪▪▪▪▪▪▪▪▪▪▪▪▪▪▪▪▪▪▪▪▪▪▪▪▪▪▪▪▪▪▪▪▪▪▪▪▪▪▪▪▪▪▪▪▪▪▪▪▪▪▪▪▪▪▪▪▪▪▪▪▪▪▪▪▪▪▪▪▪▪▪▪▪▪▪▪▪▪▪▪	▪▪▪▪▪▪▪▪▪▪▪▪▪▪▪▪▪▪▪▪▪▪ ▪▪▪▪▪▪▪▪▪▪▪▪▪▪▪▪▪▪▪▪▪▪	▪▪▪▪▪▪▪▪▪▪▪▪▪▪▪▪▪▪▪▪▪▪▪▪▪▪▪▪▪▪▪▪▪▪▪▪▪▪▪▪▪▪▪▪▪▪▪▪▪
▪▪▪▪▪▪▪▪▪▪▪▪▪▪▪▪▪▪▪▪▪▪	▪▪▪▪▪▪▪▪▪▪▪ ▪▪▪▪▪▪▪▪▪▪▪▪▪▪▪▪▪▪▪▪▪▪▪▪▪▪▪▪▪▪▪▪▪▪▪▪▪▪▪▪▪▪▪▪▪▪▪▪▪▪▪▪▪▪▪▪▪▪▪▪▪▪▪▪▪▪▪▪▪▪▪▪▪▪▪▪▪▪▪▪▪▪▪▪▪▪▪▪	▪▪▪▪▪▪▪▪▪▪▪▪▪▪▪▪▪▪▪▪▪▪▪▪▪▪▪▪▪▪ ▪▪▪▪▪▪▪▪▪▪▪▪▪▪▪▪▪▪▪▪▪▪▪▪▪▪▪▪▪▪ ▪▪▪▪▪▪▪▪▪▪▪▪▪▪▪▪▪▪▪▪▪▪▪▪▪▪▪▪▪▪▪▪▪▪▪▪▪▪▪▪▪▪▪▪▪▪▪▪▪▪▪▪▪▪▪▪▪▪▪▪▪▪▪▪▪▪▪▪▪▪▪▪▪▪▪▪▪▪▪▪▪▪▪▪▪▪▪▪	▪▪▪▪▪▪▪▪▪▪▪▪▪▪▪▪▪▪▪▪▪▪ ▪▪▪▪▪▪▪▪▪▪▪▪▪▪▪▪▪▪▪▪▪▪	▪▪▪▪▪▪▪▪▪▪▪▪▪▪▪▪▪▪▪▪▪▪▪▪▪▪▪▪▪▪▪▪▪▪▪▪▪▪▪▪▪▪▪▪▪▪▪▪▪
▪▪▪▪▪▪▪▪▪▪▪▪▪▪▪▪▪▪▪▪▪▪	▪▪▪▪▪▪▪▪▪▪▪ ▪▪▪▪▪▪▪▪▪▪▪▪▪▪▪▪▪▪▪▪▪▪▪▪▪▪▪▪▪▪▪▪▪▪▪▪▪▪▪▪▪▪▪▪▪▪▪▪▪▪▪▪▪▪▪▪▪▪▪▪▪▪▪▪▪▪▪▪▪▪▪▪▪▪▪▪▪▪▪▪▪▪▪▪▪▪▪▪	▪▪▪▪▪▪▪▪▪▪▪▪▪▪▪▪▪▪▪▪▪▪▪▪▪▪▪▪▪▪ ▪▪▪▪▪▪▪▪▪▪▪▪▪▪▪▪▪▪▪▪▪▪▪▪▪▪▪▪▪▪ ▪▪▪▪▪▪▪▪▪▪▪▪▪▪▪▪▪▪▪▪▪▪▪▪▪▪▪▪▪▪▪▪▪▪▪▪▪▪▪▪▪▪▪▪▪▪▪▪▪▪▪▪▪▪▪▪▪▪▪▪▪▪▪▪▪▪▪▪▪▪▪▪▪▪▪▪▪▪▪▪▪▪▪▪▪▪▪▪	▪▪▪▪▪▪▪▪▪▪▪▪▪▪▪▪▪▪▪▪▪▪ ▪▪▪▪▪▪▪▪▪▪▪▪▪▪▪▪▪▪▪▪▪▪	▪▪▪▪▪▪▪▪▪▪▪▪▪▪▪▪▪▪▪▪▪▪▪▪▪▪▪▪▪▪▪▪▪▪▪▪▪▪▪▪▪▪▪▪▪▪▪▪▪
▪▪▪▪▪▪▪▪▪▪▪▪▪▪▪▪▪▪▪▪▪▪	▪▪▪▪▪▪▪▪▪▪▪ ▪▪▪▪▪▪▪▪▪▪▪▪▪▪▪▪▪▪▪▪▪▪▪▪▪▪▪▪▪▪▪▪▪▪▪▪▪▪▪▪▪▪▪▪▪▪▪▪▪▪▪▪▪▪▪▪▪▪▪▪▪▪▪▪▪▪▪▪▪▪▪▪▪▪▪▪▪▪▪▪▪▪▪▪▪▪▪▪	▪▪▪▪▪▪▪▪▪▪▪▪▪▪▪▪▪▪▪▪▪▪▪▪▪▪▪▪▪▪ ▪▪▪▪▪▪▪▪▪▪▪▪▪▪▪▪▪▪▪▪▪▪▪▪▪▪▪▪▪▪ ▪▪▪▪▪▪▪▪▪▪▪▪▪▪▪▪▪▪▪▪▪▪▪▪▪▪▪▪▪▪▪▪▪▪▪▪▪▪▪▪▪▪▪▪▪▪▪▪▪▪▪▪▪▪▪▪▪▪▪▪▪▪▪▪▪▪▪▪▪▪▪▪▪▪▪▪▪▪▪▪▪▪▪▪▪▪▪▪	▪▪▪▪▪▪▪▪▪▪▪▪▪▪▪▪▪▪▪▪▪▪ ▪▪▪▪▪▪▪▪▪▪▪▪▪▪▪▪▪▪▪▪▪▪	▪▪▪▪▪▪▪▪▪▪▪▪▪▪▪▪▪▪▪▪▪▪▪▪▪▪▪▪▪▪▪▪▪▪▪▪▪▪▪▪▪▪▪▪▪▪▪▪▪
▪▪▪▪▪▪▪▪▪▪▪▪▪▪▪▪▪▪▪▪▪▪	▪▪▪▪▪▪▪▪▪▪▪ ▪▪▪▪▪▪▪▪▪▪▪▪▪▪▪▪▪▪▪▪▪▪▪▪▪▪▪▪▪▪▪▪▪▪▪▪▪▪▪▪▪▪▪▪▪▪▪▪▪▪▪▪▪▪▪▪▪▪▪▪▪▪▪▪▪▪▪▪▪▪▪▪▪▪▪▪▪▪▪▪▪▪▪▪▪▪▪▪	▪▪▪▪▪▪▪▪▪▪▪▪▪▪▪▪▪▪▪▪▪▪▪▪▪▪▪▪▪▪ ▪▪▪▪▪▪▪▪▪▪▪▪▪▪▪▪▪▪▪▪▪▪▪▪▪▪▪▪▪▪ ▪▪▪▪▪▪▪▪▪▪▪▪▪▪▪▪▪▪▪▪▪▪▪▪▪▪▪▪▪▪▪▪▪▪▪▪▪▪▪▪▪▪▪▪▪▪▪▪▪▪▪▪▪▪▪▪▪▪▪▪▪▪▪▪▪▪▪▪▪▪▪▪▪▪▪▪▪▪▪▪▪▪▪▪▪▪▪▪	▪▪▪▪▪▪▪▪▪▪▪▪▪▪▪▪▪▪▪▪▪▪ ▪▪▪▪▪▪▪▪▪▪▪▪▪▪▪▪▪▪▪▪▪▪	▪▪▪▪▪▪▪▪▪▪▪▪▪▪▪▪▪▪▪▪▪▪▪▪▪▪▪▪▪▪▪▪▪▪▪▪▪▪▪▪▪▪▪▪▪▪▪▪▪
▪▪▪▪▪▪▪▪▪▪▪▪▪▪▪▪▪▪▪▪▪▪	▪▪▪▪▪▪▪▪▪▪▪ ▪▪▪▪▪▪▪▪▪▪▪▪▪▪▪▪▪▪▪▪▪▪▪▪▪▪▪▪▪▪▪▪▪▪▪▪▪▪▪▪▪▪▪▪▪▪▪▪▪▪▪▪▪▪▪▪▪▪▪▪▪▪▪▪▪▪▪▪▪▪▪▪▪▪▪▪▪▪▪▪▪▪▪▪▪▪▪▪	▪▪▪▪▪▪▪▪▪▪▪▪▪▪▪▪▪▪▪▪▪▪▪▪▪▪▪▪▪▪ ▪▪▪▪▪▪▪▪▪▪▪▪▪▪▪▪▪▪▪▪▪▪▪▪▪▪▪▪▪▪ ▪▪▪▪▪▪▪▪▪▪▪▪▪▪▪▪▪▪▪▪▪▪▪▪▪▪▪▪▪▪▪▪▪▪▪▪▪▪▪▪▪▪▪▪▪▪▪▪▪▪▪▪▪▪▪▪▪▪▪▪▪▪▪▪▪▪▪▪▪▪▪▪▪▪▪▪▪▪▪▪▪▪▪▪▪▪▪▪	▪▪▪▪▪▪▪▪▪▪▪▪▪▪▪▪▪▪▪▪▪▪ ▪▪▪▪▪▪▪▪▪▪▪▪▪▪▪▪▪▪▪▪▪▪	▪▪▪▪▪▪▪▪▪▪▪▪▪▪▪▪▪▪▪▪▪▪▪▪▪▪▪▪▪▪▪▪▪▪▪▪▪▪▪▪▪▪▪▪▪▪▪▪▪
▪▪▪▪▪▪▪▪▪▪▪▪▪▪▪▪▪▪▪▪▪▪	▪▪▪▪▪▪▪▪▪▪▪ ▪▪▪▪▪▪▪▪▪▪▪▪▪▪▪▪▪▪▪▪▪▪▪▪▪▪▪▪▪▪▪▪▪▪▪▪▪▪▪▪▪▪▪▪▪▪▪▪▪▪▪▪▪▪▪▪▪▪▪▪▪▪▪▪▪▪▪▪▪▪▪▪▪▪▪▪▪▪▪▪▪▪▪▪▪▪▪▪	▪▪▪▪▪▪▪▪▪▪▪▪▪▪▪▪▪▪▪▪▪▪▪▪▪▪▪▪▪▪ ▪▪▪▪▪▪▪▪▪▪▪▪▪▪▪▪▪▪▪▪▪▪▪▪▪▪▪▪▪▪ ▪▪▪▪▪▪▪▪▪▪▪▪▪▪▪▪▪▪▪▪▪▪▪▪▪▪▪▪▪▪▪▪▪▪▪▪▪▪▪▪▪▪▪▪▪▪▪▪▪▪▪▪▪▪▪▪▪▪▪▪▪▪▪▪▪▪▪▪▪▪▪▪▪▪▪▪▪▪▪▪▪▪▪▪▪▪▪▪	▪▪▪▪▪▪▪▪▪▪▪▪▪▪▪▪▪▪▪▪▪▪ ▪▪▪▪▪▪▪▪▪▪▪▪▪▪▪▪▪▪▪▪▪▪	▪▪▪▪▪▪▪▪▪▪▪▪▪▪▪▪▪▪▪▪▪▪▪▪▪▪▪▪▪▪▪▪▪▪▪▪▪▪▪▪▪▪▪▪▪▪▪▪▪
▪▪▪▪▪▪▪▪▪▪▪▪▪▪▪▪▪▪▪▪▪▪	▪▪▪▪▪▪▪▪▪▪▪ ▪▪▪▪▪▪▪▪▪▪▪▪▪▪▪▪▪▪▪▪▪▪▪▪▪▪▪▪▪▪▪▪▪▪▪▪▪▪▪▪▪▪▪▪▪▪▪▪▪▪▪▪▪▪▪▪▪▪▪▪▪▪▪▪▪▪▪▪▪▪▪▪▪▪▪▪▪▪▪▪▪▪▪▪▪▪▪▪	▪▪▪▪▪▪▪▪▪▪▪▪▪▪▪▪▪▪▪▪▪▪▪▪▪▪▪▪▪▪ ▪▪▪▪▪▪▪▪▪▪▪▪▪▪▪▪▪▪▪▪▪▪▪▪▪▪▪▪▪▪ ▪▪▪▪▪▪▪▪▪▪▪▪▪▪▪▪▪▪▪▪▪▪▪▪▪▪▪▪▪▪▪▪▪▪▪▪▪▪▪▪▪▪▪▪▪▪▪▪▪▪▪▪▪▪▪▪▪▪▪▪▪▪▪▪▪▪▪▪▪▪▪▪▪▪▪▪▪▪▪▪▪▪▪▪▪▪▪▪	▪▪▪▪▪▪▪▪▪▪▪▪▪▪▪▪▪▪▪▪▪▪ ▪▪▪▪▪▪▪▪▪▪▪▪▪▪▪▪▪▪▪▪▪▪	▪▪▪▪▪▪▪▪▪▪▪▪▪▪▪▪▪▪▪▪▪▪▪▪▪▪▪▪▪▪▪▪▪▪▪▪▪▪▪▪▪▪▪▪▪▪▪▪▪
▪▪▪▪▪▪▪▪▪▪▪▪▪▪▪▪▪▪▪▪▪▪	▪▪▪▪▪▪▪▪▪▪▪ ▪▪▪▪▪▪▪▪▪▪▪▪▪▪▪▪▪▪▪▪▪▪▪▪▪▪▪▪▪▪▪▪▪▪▪▪▪▪▪▪▪▪▪▪▪▪▪▪▪▪▪▪▪▪▪▪▪▪▪▪▪▪▪▪▪▪▪▪▪▪▪▪▪▪▪▪▪▪▪▪▪▪▪▪▪▪▪▪	▪▪▪▪▪▪▪▪▪▪▪▪▪▪▪▪▪▪▪▪▪▪▪▪▪▪▪▪▪▪ ▪▪▪▪▪▪▪▪▪▪▪▪▪▪▪▪▪▪▪▪▪▪▪▪▪▪▪▪▪▪ ▪▪▪▪▪▪▪▪▪▪▪▪▪▪▪▪▪▪▪▪▪▪▪▪▪▪▪▪▪▪▪▪▪▪▪▪▪▪▪▪▪▪▪▪▪▪▪▪▪▪▪▪▪▪▪▪▪▪▪▪▪▪▪▪▪▪▪▪▪▪▪▪▪▪▪▪▪▪▪▪▪▪▪▪▪▪▪▪	▪▪▪▪▪▪▪▪▪▪▪▪▪▪▪▪▪▪▪▪▪▪ ▪▪▪▪▪▪▪▪▪▪▪▪▪▪▪▪▪▪▪▪▪▪	▪▪▪▪▪▪▪▪▪▪▪▪▪▪▪▪▪▪▪▪▪▪▪▪▪▪▪▪▪▪▪▪▪▪▪▪▪▪▪▪▪▪▪▪▪▪▪▪▪
▪▪▪▪▪▪▪▪▪▪▪▪▪▪▪▪▪▪▪▪▪▪	▪▪▪▪▪▪▪▪▪▪▪ ▪▪▪▪▪▪▪▪▪▪▪▪▪▪▪▪▪▪▪▪▪▪▪▪▪▪▪▪▪▪▪▪▪▪▪▪▪▪▪▪▪▪▪▪▪▪▪▪▪▪▪▪▪▪▪▪▪▪▪▪▪▪▪▪▪▪▪▪▪▪▪▪▪▪▪▪▪▪▪▪▪▪▪▪▪▪▪▪	▪▪▪▪▪▪▪▪▪▪▪▪▪▪▪▪▪▪▪▪▪▪▪▪▪▪▪▪▪▪ ▪▪▪▪▪▪▪▪▪▪▪▪▪▪▪▪▪▪▪▪▪▪▪▪▪▪▪▪▪▪ ▪▪▪▪▪▪▪▪▪▪▪▪▪▪▪▪▪▪▪▪▪▪▪▪▪▪▪▪▪▪▪▪▪▪▪▪▪▪▪▪▪▪▪▪▪▪▪▪▪▪▪▪▪▪▪▪▪▪▪▪▪▪▪▪▪▪▪▪▪▪▪▪▪▪▪▪▪▪▪▪▪▪▪▪▪▪▪▪	▪▪▪▪▪▪▪▪▪▪▪▪▪▪▪▪▪▪▪▪▪▪ ▪▪▪▪▪▪▪▪▪▪▪▪▪▪▪▪▪▪▪▪▪▪	▪▪▪▪▪▪▪▪▪▪▪▪▪▪▪▪▪▪▪▪▪▪▪▪▪▪▪▪▪▪▪▪▪▪▪▪▪▪▪▪▪▪▪▪▪▪▪▪▪
▪▪▪▪▪▪▪▪▪▪▪▪▪▪▪▪▪▪▪▪▪▪	▪▪▪▪▪▪▪▪▪▪▪ ▪▪▪▪▪▪▪▪▪▪▪▪▪▪▪▪▪▪▪▪▪▪▪▪▪▪▪▪▪▪▪▪▪▪▪▪▪▪▪▪▪▪▪▪▪▪▪▪▪▪▪▪▪▪▪▪▪▪▪▪▪▪▪▪▪▪▪▪▪▪▪▪▪▪▪▪▪▪▪▪▪▪▪▪▪▪▪▪	▪▪▪▪▪▪▪▪▪▪▪▪▪▪▪▪▪▪▪▪▪▪▪▪▪▪▪▪▪▪ ▪▪▪▪▪▪▪▪▪▪▪▪▪▪▪▪▪▪▪▪▪▪▪▪▪▪▪▪▪▪ ▪▪▪▪▪▪▪▪▪▪▪▪▪▪▪▪▪▪▪▪▪▪▪▪▪▪▪▪▪▪▪▪▪▪▪▪▪▪▪▪▪▪▪▪▪▪▪▪▪▪▪▪▪▪▪▪▪▪▪▪▪▪▪▪▪▪▪▪▪▪▪▪▪▪▪▪▪▪▪▪▪▪▪▪▪▪▪▪	▪▪▪▪▪▪▪▪▪▪▪▪▪▪▪▪▪▪▪▪▪▪ ▪▪▪▪▪▪▪▪▪▪▪▪▪▪▪▪▪▪▪▪▪▪	▪▪▪▪▪▪▪▪▪▪▪▪▪▪▪▪▪▪▪▪▪▪▪▪▪▪▪▪▪▪▪▪▪▪▪▪▪▪▪▪▪▪▪▪▪▪▪▪▪
▪▪▪▪▪▪▪▪▪▪▪▪▪▪▪▪▪▪▪▪▪▪	▪▪▪▪▪▪▪▪▪▪▪ ▪▪▪▪▪▪▪▪▪▪▪▪▪▪▪▪▪▪▪▪▪▪▪▪▪▪▪▪▪▪▪▪▪▪▪▪▪▪▪▪▪▪▪▪▪▪▪▪▪▪▪▪▪▪▪▪▪▪▪▪▪▪▪▪▪▪▪▪▪▪▪▪▪▪▪▪▪▪▪▪▪▪▪▪▪▪▪▪	▪▪▪▪▪▪▪▪▪▪▪▪▪▪▪▪▪▪▪▪▪▪▪▪▪▪▪▪▪▪ ▪▪▪▪▪▪▪▪▪▪▪▪▪▪▪▪▪▪▪▪▪▪▪▪▪▪▪▪▪▪ ▪▪▪▪▪▪▪▪▪▪▪▪▪▪▪▪▪▪▪▪▪▪▪▪▪▪▪▪▪▪▪▪▪▪▪▪▪▪▪▪▪▪▪▪▪▪▪▪▪▪▪▪▪▪▪▪▪▪▪▪▪▪▪▪▪▪▪▪▪▪▪▪▪▪▪▪▪▪▪▪▪▪▪▪▪▪▪▪	▪▪▪▪▪▪▪▪▪▪▪▪▪▪▪▪▪▪▪▪▪▪ ▪▪▪▪▪▪▪▪▪▪▪▪▪▪▪▪▪▪▪▪▪▪	▪▪▪▪▪▪▪▪▪▪▪▪▪▪▪▪▪▪▪▪▪▪▪▪▪▪▪▪▪▪▪▪▪▪▪▪▪▪▪▪▪▪▪▪▪▪▪▪▪
▪▪▪▪▪▪▪▪▪▪▪▪▪▪▪▪▪▪▪▪▪▪	▪▪▪▪▪▪▪▪▪▪▪ ▪▪▪▪▪▪▪▪▪▪▪▪▪▪▪▪▪▪▪▪▪▪▪▪▪▪▪▪▪▪▪▪▪▪▪▪▪▪▪▪▪▪▪▪▪▪▪▪▪▪▪▪▪▪▪▪▪▪▪▪▪▪▪▪▪▪▪▪▪▪▪▪▪▪▪▪▪▪▪▪▪▪▪▪▪▪▪▪	▪▪▪▪▪▪▪▪▪▪▪▪▪▪▪▪▪▪▪▪▪▪▪▪▪▪▪▪▪▪ ▪▪▪▪▪▪▪▪▪▪▪▪▪▪▪▪▪▪▪▪▪▪▪▪▪▪▪▪▪▪ ▪▪▪▪▪▪▪▪▪▪▪▪▪▪▪▪▪▪▪▪▪▪▪▪▪▪▪▪▪▪▪▪▪▪▪▪▪▪▪▪▪▪▪▪▪▪▪▪▪▪▪▪▪▪▪▪▪▪▪▪▪▪▪▪▪▪▪▪▪▪▪▪▪▪▪▪▪▪▪▪▪▪▪▪▪▪▪▪	▪▪▪▪▪▪▪▪▪▪▪▪▪▪▪▪▪▪▪▪▪▪ ▪▪▪▪▪▪▪▪▪▪▪▪▪▪▪▪▪▪▪▪▪▪	▪▪▪▪▪▪▪▪▪▪▪▪▪▪▪▪▪▪▪▪▪▪▪▪▪▪▪▪▪▪▪▪▪▪▪▪▪▪▪▪▪▪▪▪▪▪▪▪▪
▪▪▪▪▪▪▪▪▪▪▪▪▪▪▪▪▪▪▪▪▪▪	▪▪▪▪▪▪▪▪▪▪▪ ▪▪▪▪▪▪▪▪▪▪▪▪▪▪▪▪▪▪▪▪▪▪▪▪▪▪▪▪▪▪▪▪▪▪▪▪▪▪▪▪▪▪▪▪▪▪▪▪▪▪▪▪▪▪▪▪▪▪▪▪▪▪▪▪▪▪▪▪▪▪▪▪▪▪▪▪▪▪▪▪▪▪▪▪▪▪▪▪	▪▪▪▪▪▪▪▪▪▪▪▪▪▪▪▪▪▪▪▪▪▪▪▪▪▪▪▪▪▪ ▪▪▪▪▪▪▪▪▪▪▪▪▪▪▪▪▪▪▪▪▪▪▪▪▪▪▪▪▪▪ ▪▪▪▪▪▪▪▪▪▪▪▪▪▪▪▪▪▪▪▪▪▪▪▪▪▪▪▪▪▪▪▪▪▪▪▪▪▪▪▪▪▪▪▪▪▪▪▪▪▪▪▪▪▪▪▪▪▪▪▪▪▪▪▪▪▪▪▪▪▪▪▪▪▪▪▪▪▪▪▪▪▪▪▪▪▪▪▪	▪▪▪▪▪▪▪▪▪▪▪▪▪▪▪▪▪▪▪▪▪▪ ▪▪▪▪▪▪▪▪▪▪▪▪▪▪▪▪▪▪▪▪▪▪	▪▪▪▪▪▪▪▪▪▪▪▪▪▪▪▪▪▪▪▪▪▪▪▪▪▪▪▪▪▪▪▪▪▪▪▪▪▪▪▪▪▪▪▪▪▪▪▪▪
▪▪▪▪▪▪▪▪▪▪▪▪▪▪▪▪▪▪▪▪▪▪	▪▪▪▪▪▪▪▪▪▪▪ ▪▪▪▪▪▪▪▪▪▪▪▪▪▪▪▪▪▪▪▪▪▪▪▪▪▪▪▪▪▪▪▪▪▪▪▪▪▪▪▪▪▪▪▪▪▪▪▪▪▪▪▪▪▪▪▪▪▪▪▪▪▪▪▪▪▪▪▪▪▪▪▪▪▪▪▪▪▪▪▪▪▪▪▪▪▪▪▪	▪▪▪▪▪▪▪▪▪▪▪▪▪▪▪▪▪▪▪▪▪▪▪▪▪▪▪▪▪▪ ▪▪▪▪▪▪▪▪▪▪▪▪▪▪▪▪▪▪▪▪▪▪▪▪▪▪▪▪▪▪ ▪▪▪▪▪▪▪▪▪▪▪▪▪▪▪▪▪▪▪▪▪▪▪▪▪▪▪▪▪▪▪▪▪▪▪▪▪▪▪▪▪▪▪▪▪▪▪▪▪▪▪▪▪▪▪▪▪▪▪▪▪▪▪▪▪▪▪▪▪▪▪▪▪▪▪▪▪▪▪▪▪▪▪▪▪▪▪▪	▪▪▪▪▪▪▪▪▪▪▪▪▪▪▪▪▪▪▪▪▪▪ ▪▪▪▪▪▪▪▪▪▪▪▪▪▪▪▪▪▪▪▪▪▪	▪▪▪▪▪▪▪▪▪▪▪▪▪▪▪▪▪▪▪▪▪▪▪▪▪▪▪▪▪▪▪▪▪▪▪▪▪▪▪▪▪▪▪▪▪▪▪▪▪
▪▪▪▪▪▪▪▪▪▪▪▪▪▪▪▪▪▪▪▪▪▪	▪▪▪▪▪▪▪▪▪▪▪ ▪▪▪▪▪▪▪▪▪▪▪▪▪▪▪▪▪▪▪▪▪▪▪▪▪▪▪▪▪▪▪▪▪▪▪▪▪▪▪▪▪▪▪▪▪▪▪▪▪▪▪▪▪▪▪▪▪▪▪▪▪▪▪▪▪▪▪▪▪▪▪▪▪▪▪▪▪▪▪▪▪▪▪▪▪▪▪▪	▪▪▪▪▪▪▪▪▪▪▪▪▪▪▪▪▪▪▪▪▪▪▪▪▪▪▪▪▪▪ ▪▪▪▪▪▪▪▪▪▪▪▪▪▪▪▪▪▪▪▪▪▪▪▪▪▪▪▪▪▪ ▪▪▪▪▪▪▪▪▪▪▪▪▪▪▪▪▪▪▪▪▪▪▪▪▪▪▪▪▪▪▪▪▪▪▪▪▪▪▪▪▪▪▪▪▪▪▪▪▪▪▪▪▪▪▪▪▪▪▪▪▪▪▪▪▪▪▪▪▪▪▪▪▪▪▪▪▪▪▪▪▪▪▪▪▪▪▪▪	▪▪▪▪▪▪▪▪▪▪▪▪▪▪▪▪▪▪▪▪▪▪ ▪▪▪▪▪▪▪▪▪▪▪▪▪▪▪▪▪▪▪▪▪▪	▪▪▪▪▪▪▪▪▪▪▪▪▪▪▪▪▪▪▪▪▪▪▪▪▪▪▪▪▪▪▪▪▪▪▪▪▪▪▪▪▪▪▪▪▪▪▪▪▪
▪▪▪▪▪▪▪▪▪▪▪▪▪▪▪▪▪▪▪▪▪▪	▪▪▪▪▪▪▪▪▪▪▪ ▪▪▪▪▪▪▪▪▪▪▪▪▪▪▪▪▪▪▪▪▪▪▪▪▪▪▪▪▪▪▪▪▪▪▪▪▪▪▪▪▪▪▪▪▪▪▪▪▪▪▪▪▪▪▪▪▪▪▪▪▪▪▪▪▪▪▪▪▪▪▪▪▪▪▪▪▪▪▪▪▪▪▪▪▪▪▪▪	▪▪▪▪▪▪▪▪▪▪▪▪▪▪▪▪▪▪▪▪▪▪▪▪▪▪▪▪▪▪ ▪▪▪▪▪▪▪▪▪▪▪▪▪▪▪▪▪▪▪▪▪▪▪▪▪▪▪▪▪▪ ▪▪▪▪▪▪▪▪▪▪▪▪▪▪▪▪▪▪▪▪▪▪▪▪▪▪▪▪▪▪▪▪▪▪▪▪▪▪▪▪▪▪▪▪▪▪▪▪▪▪▪▪▪▪▪▪▪▪▪▪▪▪▪▪▪▪▪▪▪▪▪▪▪▪▪▪▪▪▪▪▪▪▪▪▪▪▪▪	▪▪▪▪▪▪▪▪▪▪▪▪▪▪▪▪▪▪▪▪▪▪ ▪▪▪▪▪▪▪▪▪▪▪▪▪▪▪▪▪▪▪▪▪▪	▪▪▪▪▪▪▪▪▪▪▪▪▪▪▪▪▪▪▪▪▪▪▪▪▪▪▪▪▪▪▪▪▪▪▪▪▪▪▪▪▪▪▪▪▪▪▪▪▪
▪▪▪▪▪▪▪▪▪▪▪▪▪▪▪▪▪▪▪▪▪▪	▪▪▪▪▪▪▪▪▪▪▪ ▪▪▪▪▪▪▪▪▪▪▪▪▪▪▪▪▪▪▪▪▪▪▪▪▪▪▪▪▪▪▪▪▪▪▪▪▪▪▪▪▪▪▪▪▪▪▪▪▪▪▪▪▪▪▪▪▪▪▪▪▪▪▪▪▪▪▪▪▪▪▪▪▪▪▪▪▪▪▪▪▪▪▪▪▪▪▪▪	▪▪▪▪▪▪▪▪▪▪▪▪▪▪▪▪▪▪▪▪▪▪▪▪▪▪▪▪▪▪ ▪▪▪▪▪▪▪▪▪▪▪▪▪▪▪▪▪▪▪▪▪▪▪▪▪▪▪▪▪▪ ▪▪▪▪▪▪▪▪▪▪▪▪▪▪▪▪▪▪▪▪▪▪▪▪▪▪▪▪▪▪▪▪▪▪▪▪▪▪▪▪▪▪▪▪▪▪▪▪▪▪▪▪▪▪▪▪▪▪▪▪▪▪▪▪▪▪▪▪▪▪▪▪▪▪▪▪▪▪▪▪▪▪▪▪▪▪▪▪	▪▪▪▪▪▪▪▪▪▪▪▪▪▪▪▪▪▪▪▪▪▪ ▪▪▪▪▪▪▪▪▪▪▪▪▪▪▪▪▪▪▪▪▪▪	▪▪▪▪▪▪▪▪▪▪▪▪▪▪▪▪▪▪▪▪▪▪▪▪▪▪▪▪▪▪▪▪▪▪▪▪▪▪▪▪▪▪▪▪▪▪▪▪▪
▪▪▪▪▪▪▪▪▪▪▪▪▪▪▪▪▪▪▪▪▪▪	▪▪▪▪▪▪▪▪▪▪▪ ▪▪▪▪▪▪▪▪▪▪▪▪▪▪▪▪▪▪▪▪▪▪▪▪▪▪▪▪▪▪▪▪▪▪▪▪▪▪▪▪▪▪▪▪▪▪▪▪▪▪▪▪▪▪▪▪▪▪▪▪▪▪▪▪▪▪▪▪▪▪▪▪▪▪▪▪▪▪▪▪▪▪▪▪▪▪▪▪	▪▪▪▪▪▪▪▪▪▪▪▪▪▪▪▪▪▪▪▪▪▪▪▪▪▪▪▪▪▪ ▪▪▪▪▪▪▪▪▪▪▪▪▪▪▪▪▪▪▪▪▪▪▪▪▪▪▪▪▪▪ ▪▪▪▪▪▪▪▪▪▪▪▪▪▪▪▪▪▪▪▪▪▪▪▪▪▪▪▪▪▪▪▪▪▪▪▪▪▪▪▪▪▪▪▪▪▪▪▪▪▪▪▪▪▪▪▪▪▪▪▪▪▪▪▪▪▪▪▪▪▪▪▪▪▪▪▪▪▪▪▪▪▪▪▪▪▪▪▪	▪▪▪▪▪▪▪▪▪▪▪▪▪▪▪▪▪▪▪▪▪▪ ▪▪▪▪▪▪▪▪▪▪▪▪▪▪▪▪▪▪▪▪▪▪	▪▪▪▪▪▪▪▪▪▪▪▪▪▪▪▪▪▪▪▪▪▪▪▪▪▪▪▪▪▪▪▪▪▪▪▪▪▪▪▪▪▪▪▪▪▪▪▪▪
▪▪▪▪▪▪▪▪▪▪▪▪▪▪▪▪▪▪▪▪▪▪	▪▪▪▪▪▪▪▪▪▪▪ ▪▪▪▪▪▪▪▪▪▪▪▪▪▪▪▪▪▪▪▪▪▪▪▪▪▪▪▪▪▪▪▪▪▪▪▪▪▪▪▪▪▪▪▪▪▪▪▪▪▪▪▪▪▪▪▪▪▪▪▪▪▪▪▪▪▪▪▪▪▪▪▪▪▪▪▪▪▪▪▪▪▪▪▪▪▪▪▪	▪▪▪▪▪▪▪▪▪▪▪▪▪▪▪▪▪▪▪▪▪▪▪▪▪▪▪▪▪▪ ▪▪▪▪▪▪▪▪▪▪▪▪▪▪▪▪▪▪▪▪▪▪▪▪▪▪▪▪▪▪ ▪▪▪▪▪▪▪▪▪▪▪▪▪▪▪▪▪▪▪▪▪▪▪▪▪▪▪▪▪▪▪▪▪▪▪▪▪▪▪▪▪▪▪▪▪▪▪▪▪▪▪▪▪▪▪▪▪▪▪▪▪▪▪▪▪▪▪▪▪▪▪▪▪▪▪▪▪▪▪▪▪▪▪▪▪▪▪▪	▪▪▪▪▪▪▪▪▪▪▪▪▪▪▪▪▪▪▪▪▪▪ ▪▪▪▪▪▪▪▪▪▪▪▪▪▪▪▪▪▪▪▪▪▪	▪▪▪▪▪▪▪▪▪▪▪▪▪▪▪▪▪▪▪▪▪▪▪▪▪▪▪▪▪▪▪▪▪▪▪▪▪▪▪▪▪▪▪▪▪▪▪▪▪
▪▪▪▪▪▪▪▪▪▪▪▪▪▪▪▪▪▪▪▪▪▪	▪▪▪▪▪▪▪▪▪▪▪ ▪▪▪▪▪▪▪▪▪▪▪▪▪▪▪▪▪▪▪▪▪▪▪▪▪▪▪▪▪▪▪▪▪▪▪▪▪▪▪▪▪▪▪▪▪▪▪▪▪▪▪▪▪▪▪▪▪▪▪▪▪▪▪▪▪▪▪▪▪▪▪▪▪▪▪▪▪▪▪▪▪▪▪▪▪▪▪▪	▪▪▪▪▪▪▪▪▪▪▪▪▪▪▪▪▪▪▪▪▪▪▪▪▪▪▪▪▪▪ ▪▪▪▪▪▪▪▪▪▪▪▪▪▪▪▪▪▪▪▪▪▪▪▪▪▪▪▪▪▪ ▪▪▪▪▪▪▪▪▪▪▪▪▪▪▪▪▪▪▪▪▪▪▪▪▪▪▪▪▪▪▪▪▪▪▪▪▪▪▪▪▪▪▪▪▪▪▪▪▪▪▪▪▪▪▪▪▪▪▪▪▪▪▪▪▪▪▪▪▪▪▪▪▪▪▪▪▪▪▪▪▪▪▪▪▪▪▪▪	▪▪▪▪▪▪▪▪▪▪▪▪▪▪▪▪▪▪▪▪▪▪ ▪▪▪▪▪▪▪▪▪▪▪▪▪▪▪▪▪▪▪▪▪▪	▪▪▪▪▪▪▪▪▪▪▪▪▪▪▪▪▪▪▪▪▪▪▪▪▪▪▪▪▪▪▪▪▪▪▪▪▪▪▪▪▪▪▪▪▪▪▪▪▪
▪▪▪▪▪▪▪▪▪▪▪▪▪▪▪▪▪▪▪▪▪▪	▪▪▪▪▪▪▪▪▪▪▪ ▪▪▪▪▪▪▪▪▪▪▪▪▪▪▪▪▪▪▪▪▪▪▪▪▪▪▪▪▪▪▪▪▪▪▪▪▪▪▪▪▪▪▪▪▪▪▪▪▪▪▪▪▪▪▪▪▪▪▪▪▪▪▪▪▪▪▪▪▪▪▪▪▪▪▪▪▪▪▪▪▪▪▪▪▪▪▪▪	▪▪▪▪▪▪▪▪▪▪▪▪▪▪▪▪▪▪▪▪▪▪▪▪▪▪▪▪▪▪ ▪▪▪▪▪▪▪▪▪▪▪▪▪▪▪▪▪▪▪▪▪▪▪▪▪▪▪▪▪▪ ▪▪▪▪▪▪▪▪▪▪▪▪▪▪▪▪▪▪▪▪▪▪▪▪▪▪▪▪▪▪▪▪▪▪▪▪▪▪▪▪▪▪▪▪▪▪▪▪▪▪▪▪▪▪▪▪▪▪▪▪▪▪▪▪▪▪▪▪▪▪▪▪▪▪▪▪▪▪▪▪▪▪▪▪▪▪▪▪	▪▪▪▪▪▪▪▪▪▪▪▪▪▪▪▪▪▪▪▪▪▪ ▪▪▪▪▪▪▪▪▪▪▪▪▪▪▪▪▪▪▪▪▪▪	▪▪▪▪▪▪▪▪▪▪▪▪▪▪▪▪▪▪▪▪▪▪▪▪▪▪▪▪▪▪▪▪▪▪▪▪▪▪▪▪▪▪▪▪▪▪▪▪▪
▪▪▪▪▪▪▪▪▪▪▪▪▪▪▪▪▪▪▪▪▪▪	▪▪▪▪▪▪▪▪▪▪▪ ▪▪▪▪▪▪▪▪▪▪▪▪▪▪▪▪▪▪▪▪▪▪▪▪▪▪▪▪▪▪▪▪▪▪▪▪▪▪▪▪▪▪▪▪▪▪▪▪▪▪▪▪▪▪▪▪▪▪▪▪▪▪▪▪▪▪▪▪▪▪▪▪▪▪▪▪▪▪▪▪▪▪▪▪▪▪▪▪	▪▪▪▪▪▪▪▪▪▪▪▪▪▪▪▪▪▪▪▪▪▪▪▪▪▪▪▪▪▪ ▪▪▪▪▪▪▪▪▪▪▪▪▪▪▪▪▪▪▪▪▪▪▪▪▪▪▪▪▪▪ ▪▪▪▪▪▪▪▪▪▪▪▪▪▪▪▪▪▪▪▪▪▪▪▪▪▪▪▪▪▪▪▪▪▪▪▪▪▪▪▪▪▪▪▪▪▪▪▪▪▪▪▪▪▪▪▪▪▪▪▪▪▪▪▪▪▪▪▪▪▪▪▪▪▪▪▪▪▪▪▪▪▪▪▪▪▪▪▪	▪▪▪▪▪▪▪▪▪▪▪▪▪▪▪▪▪▪▪▪▪▪ ▪▪▪▪▪▪▪▪▪▪▪▪▪▪▪▪▪▪▪▪▪▪	▪▪▪▪▪▪▪▪▪▪▪▪▪▪▪▪▪▪▪▪▪▪▪▪▪▪▪▪▪▪▪▪▪▪▪▪▪▪▪▪▪▪▪▪▪▪▪▪▪
▪▪▪▪▪▪▪▪▪▪▪▪▪▪▪▪▪▪▪▪▪▪	▪▪▪▪▪▪▪▪▪▪▪ ▪▪▪▪▪▪▪▪▪▪▪▪▪▪▪▪▪▪▪▪▪▪▪▪▪▪▪▪▪▪▪▪▪▪▪▪▪▪▪▪▪▪▪▪▪▪▪▪▪▪▪▪▪▪▪▪▪▪▪▪▪▪▪▪▪▪▪▪▪▪▪▪▪▪▪▪▪▪▪▪▪▪▪▪▪▪▪▪	▪▪▪▪▪▪▪▪▪▪▪▪▪▪▪▪▪▪▪▪▪▪▪▪▪▪▪▪▪▪ ▪▪▪▪▪▪▪▪▪▪▪▪▪▪▪▪▪▪▪▪▪▪▪▪▪▪▪▪▪▪ ▪▪▪▪▪▪▪▪▪▪▪▪▪▪▪▪▪▪▪▪▪▪▪▪▪▪▪▪▪▪▪▪▪▪▪▪▪▪▪▪▪▪▪▪▪▪▪▪▪▪▪▪▪▪▪▪▪▪▪▪▪▪▪▪▪▪▪▪▪▪▪▪▪▪▪▪▪▪▪▪▪▪▪▪▪▪▪▪	▪▪▪▪▪▪▪▪▪▪▪▪▪▪▪▪▪▪▪▪▪▪ ▪▪▪▪▪▪▪▪▪▪▪▪▪▪▪▪▪▪▪▪▪▪	▪▪▪▪▪▪▪▪▪▪▪▪▪▪▪▪▪▪▪▪▪▪▪▪▪▪▪▪▪▪▪▪▪▪▪▪▪▪▪▪▪▪▪▪▪▪▪▪▪
▪▪▪▪▪▪▪▪▪▪▪▪▪▪▪▪▪▪▪▪▪▪	▪▪▪▪▪▪▪▪▪▪▪ ▪▪▪▪▪▪▪▪▪▪▪▪▪▪▪▪▪▪▪▪▪▪▪▪▪▪▪▪▪▪▪▪▪▪▪▪▪▪▪▪▪▪▪▪▪▪▪▪▪▪▪▪▪▪▪▪▪▪▪▪▪▪▪▪▪▪▪▪▪▪▪▪▪▪▪▪▪▪▪▪▪▪▪▪▪▪▪▪	▪▪▪▪▪▪▪▪▪▪▪▪▪▪▪▪▪▪▪▪▪▪▪▪▪▪▪▪▪▪ ▪▪▪▪▪▪▪▪▪▪▪▪▪▪▪▪▪▪▪▪▪▪▪▪▪▪▪▪▪▪ ▪▪▪▪▪▪▪▪▪▪▪▪▪▪▪▪▪▪▪▪▪▪▪▪▪▪▪▪▪▪▪▪▪▪▪▪▪▪▪▪▪▪▪▪▪▪▪▪▪▪▪▪▪▪▪▪▪▪▪▪▪▪▪▪▪▪▪▪▪▪▪▪▪▪▪▪▪▪▪▪▪▪▪▪▪▪▪▪	▪▪▪▪▪▪▪▪▪▪▪▪▪▪▪▪▪▪▪▪▪▪ ▪▪▪▪▪▪▪▪▪▪▪▪▪▪▪▪▪▪▪▪▪▪	▪▪▪▪▪▪▪▪▪▪▪▪▪▪▪▪▪▪▪▪▪▪▪▪▪▪▪▪▪▪▪▪▪▪▪▪▪▪▪▪▪▪▪▪▪▪▪▪▪
▪▪▪▪▪▪▪▪▪▪▪▪▪▪▪▪▪▪▪▪▪▪	▪▪▪▪▪▪▪▪▪▪▪ ▪▪▪▪▪▪▪▪▪▪▪▪▪▪▪▪▪▪▪▪▪▪▪▪▪▪▪▪▪▪▪▪▪▪▪▪▪▪▪▪▪▪▪▪▪▪▪▪▪▪▪▪▪▪▪▪▪▪▪▪▪▪▪▪▪▪▪▪▪▪▪▪▪▪▪▪▪▪▪▪▪▪▪▪▪▪▪▪	▪▪▪▪▪▪▪▪▪▪▪▪▪▪▪▪▪▪▪▪▪▪▪▪▪▪▪▪▪▪ ▪▪▪▪▪▪▪▪▪▪▪▪▪▪▪▪▪▪▪▪▪▪▪▪▪▪▪▪▪▪ ▪▪▪▪▪▪▪▪▪▪▪▪▪▪▪▪▪▪▪▪▪▪▪▪▪▪▪▪▪▪▪▪▪▪▪▪▪▪▪▪▪▪▪▪▪▪▪▪▪▪▪▪▪▪▪▪▪▪▪▪▪▪▪▪▪▪▪▪▪▪▪▪▪▪▪▪▪▪▪▪▪▪▪▪▪▪▪▪	▪▪▪▪▪▪▪▪▪▪▪▪▪▪▪▪▪▪▪▪▪▪ ▪▪▪▪▪▪▪▪▪▪▪▪▪▪▪▪▪▪▪▪▪▪	▪▪▪▪▪▪▪▪▪▪▪▪▪▪▪▪▪▪▪▪▪▪▪▪▪▪▪▪▪▪▪▪▪▪▪▪▪▪▪▪▪▪▪▪▪▪▪▪▪
▪▪▪▪▪▪▪▪▪▪▪▪▪▪▪▪▪▪▪▪▪▪	▪▪▪▪▪▪▪▪▪▪▪ ▪▪▪▪▪▪▪▪▪▪▪▪▪▪▪▪▪▪▪▪▪▪▪▪▪▪▪▪▪▪▪▪▪▪▪▪▪▪▪▪▪▪▪▪▪▪▪▪▪▪▪▪▪▪▪▪▪▪▪▪▪▪▪▪▪▪▪▪▪▪▪▪▪▪▪▪▪▪▪▪▪▪▪▪▪▪▪▪	▪▪▪▪▪▪▪▪▪▪▪▪▪▪▪▪▪▪▪▪▪▪▪▪▪▪▪▪▪▪ ▪▪▪▪▪▪▪▪▪▪▪▪▪▪▪▪▪▪▪▪▪▪▪▪▪▪▪▪▪▪ ▪▪▪▪▪▪▪▪▪▪▪▪▪▪▪▪▪▪▪▪▪▪▪▪▪▪▪▪▪▪▪▪▪▪▪▪▪▪▪▪▪▪▪▪▪▪▪▪▪▪▪▪▪▪▪▪▪▪▪▪▪▪▪▪▪▪▪▪▪▪▪▪▪▪▪▪▪▪▪▪▪▪▪▪▪▪▪▪	▪▪▪▪▪▪▪▪▪▪▪▪▪▪▪▪▪▪▪▪▪▪ ▪▪▪▪▪▪▪▪▪▪▪▪▪▪▪▪▪▪▪▪▪▪	▪▪▪▪▪▪▪▪▪▪▪▪▪▪▪▪▪▪▪▪▪▪▪▪▪▪▪▪▪▪▪▪▪▪▪▪▪▪▪▪▪▪▪▪▪▪▪▪▪
▪▪▪▪▪▪▪▪▪▪▪▪▪▪▪▪▪▪▪▪▪▪	▪▪▪▪▪▪▪▪▪▪▪ ▪▪▪▪▪▪▪▪▪▪▪▪▪▪▪▪▪▪▪▪▪▪▪▪▪▪▪▪▪▪▪▪▪▪▪▪▪▪▪▪▪▪▪▪▪▪▪▪▪▪▪▪▪▪▪▪▪▪▪▪▪▪▪▪▪▪▪▪▪▪▪▪▪▪▪▪▪▪▪▪▪▪▪▪▪▪▪▪	▪▪▪▪▪▪▪▪▪▪▪▪▪▪▪▪▪▪▪▪▪▪▪▪▪▪▪▪▪▪ ▪▪▪▪▪▪▪▪▪▪▪▪▪▪▪▪▪▪▪▪▪▪▪▪▪▪▪▪▪▪ ▪▪▪▪▪▪▪▪▪▪▪▪▪▪▪▪▪▪▪▪▪▪▪▪▪▪▪▪▪▪▪▪▪▪▪▪▪▪▪▪▪▪▪▪▪▪▪▪▪▪▪▪▪▪▪▪▪▪▪▪▪▪▪▪▪▪▪▪▪▪▪▪▪▪▪▪▪▪▪▪▪▪▪▪▪▪▪▪	▪▪▪▪▪▪▪▪▪▪▪▪▪▪▪▪▪▪▪▪▪▪ ▪▪▪▪▪▪▪▪▪▪▪▪▪▪▪▪▪▪▪▪▪▪	▪▪▪▪▪▪▪▪▪▪▪▪▪▪▪▪▪▪▪▪▪▪▪▪▪▪▪▪▪▪▪▪▪▪▪▪▪▪▪▪▪▪▪▪▪▪▪▪▪
▪▪▪▪▪▪▪▪▪▪▪▪▪▪▪▪▪▪▪▪▪▪	▪▪▪▪▪▪▪▪▪▪▪ ▪▪▪▪▪▪▪▪▪▪▪▪▪▪▪▪▪▪▪▪▪▪▪▪▪▪▪▪▪▪▪▪▪▪▪▪▪▪▪▪▪▪▪▪▪▪▪▪▪▪▪▪▪▪▪▪▪▪▪▪▪▪▪▪▪▪▪▪▪▪▪▪▪▪▪▪▪▪▪▪▪▪▪▪▪▪▪▪	▪▪▪▪▪▪▪▪▪▪▪▪▪▪▪▪▪▪▪▪▪▪▪▪▪▪▪▪▪▪ ▪▪▪▪▪▪▪▪▪▪▪▪▪▪▪▪▪▪▪▪▪▪▪▪▪▪▪▪▪▪ ▪▪▪▪▪▪▪▪▪▪▪▪▪▪▪▪▪▪▪▪▪▪▪▪▪▪▪▪▪▪▪▪▪▪▪▪▪▪▪▪▪▪▪▪▪▪▪▪▪▪▪▪▪▪▪▪▪▪▪▪▪▪▪▪▪▪▪▪▪▪▪▪▪▪▪▪▪▪▪▪▪▪▪▪▪▪▪▪	▪▪▪▪▪▪▪▪▪▪▪▪▪▪▪▪▪▪▪▪▪▪ ▪▪▪▪▪▪▪▪▪▪▪▪▪▪▪▪▪▪▪▪▪▪	▪▪▪▪▪▪▪▪▪▪▪▪▪▪▪▪▪▪▪▪▪▪▪▪▪▪▪▪▪▪▪▪▪▪▪▪▪▪▪▪▪▪▪▪▪▪▪▪▪
▪▪▪▪▪▪▪▪▪▪▪▪▪▪▪▪▪▪▪▪▪▪	▪▪▪▪▪▪▪▪▪▪▪ ▪▪▪▪▪▪▪▪▪▪▪▪▪▪▪▪▪▪▪▪▪▪▪▪▪▪▪▪▪▪▪▪▪▪▪▪▪▪▪▪▪▪▪▪▪▪▪▪▪▪▪▪▪▪▪▪▪▪▪▪▪▪▪▪▪▪▪▪▪▪▪▪▪▪▪▪▪▪▪▪▪▪▪▪▪▪▪▪	▪▪▪▪▪▪▪▪▪▪▪▪▪▪▪▪▪▪▪▪▪▪▪▪▪▪▪▪▪▪ ▪▪▪▪▪▪▪▪▪▪▪▪▪▪▪▪▪▪▪▪▪▪▪▪▪▪▪▪▪▪ ▪▪▪▪▪▪▪▪▪▪▪▪▪▪▪▪▪▪▪▪▪▪▪▪▪▪▪▪▪▪▪▪▪▪▪▪▪▪▪▪▪▪▪▪▪▪▪▪▪▪▪▪▪▪▪▪▪▪▪▪▪▪▪▪▪▪▪▪▪▪▪▪▪▪▪▪▪▪▪▪▪▪▪▪▪▪▪▪	▪▪▪▪▪▪▪▪▪▪▪▪▪▪▪▪▪▪▪▪▪▪ ▪▪▪▪▪▪▪▪▪▪▪▪▪▪▪▪▪▪▪▪▪▪	▪▪▪▪▪▪▪▪▪▪▪▪▪▪▪▪▪▪▪▪▪▪▪▪▪▪▪▪▪▪▪▪▪▪▪▪▪▪▪▪▪▪▪▪▪▪▪▪▪
▪▪▪▪▪▪▪▪▪▪▪▪▪▪▪▪▪▪▪▪▪▪	▪▪▪▪▪▪▪▪▪▪▪ ▪▪▪▪▪▪▪▪▪▪▪▪▪▪▪▪▪▪▪▪▪▪▪▪▪▪▪▪▪▪▪▪▪▪▪▪▪▪▪▪▪▪▪▪▪▪▪▪▪▪▪▪▪▪▪▪▪▪▪▪▪▪▪▪▪▪▪▪▪▪▪▪▪▪▪▪▪▪▪▪▪▪▪▪▪▪▪▪	▪▪▪▪▪▪▪▪▪▪▪▪▪▪▪▪▪▪▪▪▪▪▪▪▪▪▪▪▪▪ ▪▪▪▪▪▪▪▪▪▪▪▪▪▪▪▪▪▪▪▪▪▪▪▪▪▪▪▪▪▪ ▪▪▪▪▪▪▪▪▪▪▪▪▪▪▪▪▪▪▪▪▪▪▪▪▪▪▪▪▪▪▪▪▪▪▪▪▪▪▪▪▪▪▪▪▪▪▪▪▪▪▪▪▪▪▪▪▪▪▪▪▪▪▪▪▪▪▪▪▪▪▪▪▪▪▪▪▪▪▪▪▪▪▪▪▪▪▪▪	▪▪▪▪▪▪▪▪▪▪▪▪▪▪▪▪▪▪▪▪▪▪ ▪▪▪▪▪▪▪▪▪▪▪▪▪▪▪▪▪▪▪▪▪▪	▪▪▪▪▪▪▪▪▪▪▪▪▪▪▪▪▪▪▪▪▪▪▪▪▪▪▪▪▪▪▪▪▪▪▪▪▪▪▪▪▪▪▪▪▪▪▪▪▪
▪▪▪▪▪▪▪▪▪▪▪▪▪▪▪▪▪▪▪▪▪▪	▪▪▪▪▪▪▪▪▪▪▪ ▪▪▪▪▪▪▪▪▪▪▪▪▪▪▪▪▪▪▪▪▪▪▪▪▪▪▪▪▪▪▪▪▪▪▪▪▪▪▪▪▪▪▪▪▪▪▪▪▪▪▪▪▪▪▪▪▪▪▪▪▪▪▪▪▪▪▪▪▪▪▪▪▪▪▪▪▪▪▪▪▪▪▪▪▪▪▪▪	▪▪▪▪▪▪▪▪▪▪▪▪▪▪▪▪▪▪▪▪▪▪▪▪▪▪▪▪▪▪ ▪▪▪▪▪▪▪▪▪▪▪▪▪▪▪▪▪▪▪▪▪▪▪▪▪▪▪▪▪▪ ▪▪▪▪▪▪▪▪▪▪▪▪▪▪▪▪▪▪▪▪▪▪▪▪▪▪▪▪▪▪▪▪▪▪▪▪▪▪▪▪▪▪▪▪▪▪▪▪▪▪▪▪▪▪▪▪▪▪▪▪▪▪▪▪▪▪▪▪▪▪▪▪▪▪▪▪▪▪▪▪▪▪▪▪▪▪▪▪	▪▪▪▪▪▪▪▪▪▪▪▪▪▪▪▪▪▪▪▪▪▪ ▪▪▪▪▪▪▪▪▪▪▪▪▪▪▪▪▪▪▪▪▪▪	▪▪▪▪▪▪▪▪▪▪▪▪▪▪▪▪▪▪▪▪▪▪▪▪▪▪▪▪▪▪▪▪▪▪▪▪▪▪▪▪▪▪▪▪▪▪▪▪▪
▪▪▪▪▪▪▪▪▪▪▪▪▪▪▪▪▪▪▪▪▪▪	▪▪▪▪▪▪▪▪▪▪▪ ▪▪▪▪▪▪▪▪▪▪▪▪▪▪▪▪▪▪▪▪▪▪▪▪▪▪▪▪▪▪▪▪▪▪▪▪▪▪▪▪▪▪▪▪▪▪▪▪▪▪▪▪▪▪▪▪▪▪▪▪▪▪▪▪▪▪▪▪▪▪▪▪▪▪▪▪▪▪▪▪▪▪▪▪▪▪▪▪	▪▪▪▪▪▪▪▪▪▪▪▪▪▪▪▪▪▪▪▪▪▪▪▪▪▪▪▪▪▪ ▪▪▪▪▪▪▪▪▪▪▪▪▪▪▪▪▪▪▪▪▪▪▪▪▪▪▪▪▪▪ ▪▪▪▪▪▪▪▪▪▪▪▪▪▪▪▪▪▪▪▪▪▪▪▪▪▪▪▪▪▪▪▪▪▪▪▪▪▪▪▪▪▪▪▪▪▪▪▪▪▪▪▪▪▪▪▪▪▪▪▪▪▪▪▪▪▪▪▪▪▪▪▪▪▪▪▪▪▪▪▪▪▪▪▪▪▪▪▪	▪▪▪▪▪▪▪▪▪▪▪▪▪▪▪▪▪▪▪▪▪▪ ▪▪▪▪▪▪▪▪▪▪▪▪▪▪▪▪▪▪▪▪▪▪	▪▪▪▪▪▪▪▪▪▪▪▪▪▪▪▪▪▪▪▪▪▪▪▪▪▪▪▪▪▪▪▪▪▪▪▪▪▪▪▪▪▪▪▪▪▪▪▪▪
▪▪▪▪▪▪▪▪▪▪▪▪▪▪▪▪▪▪▪▪▪▪	▪▪▪▪▪▪▪▪▪▪▪ ▪▪▪▪▪▪▪▪▪▪▪▪▪▪▪▪▪▪▪▪▪▪▪▪▪▪▪▪▪▪▪▪▪▪▪▪▪▪▪▪▪▪▪▪▪▪▪▪▪▪▪▪▪▪▪▪▪▪▪▪▪▪▪▪▪▪▪▪▪▪▪▪▪▪▪▪▪▪▪▪▪▪▪▪▪▪▪▪	▪▪▪▪▪▪▪▪▪▪▪▪▪▪▪▪▪▪▪▪▪▪▪▪▪▪▪▪▪▪ ▪▪▪▪▪▪▪▪▪▪▪▪▪▪▪▪▪▪▪▪▪▪▪▪▪▪▪▪▪▪ ▪▪▪▪▪▪▪▪▪▪▪▪▪▪▪▪▪▪▪▪▪▪▪▪▪▪▪▪▪▪▪▪▪▪▪▪▪▪▪▪▪▪▪▪▪▪▪▪▪▪▪▪▪▪▪▪▪▪▪▪▪▪▪▪▪▪▪▪▪▪▪▪▪▪▪▪▪▪▪▪▪▪▪▪▪▪▪▪	▪▪▪▪▪▪▪▪▪▪▪▪▪▪▪▪▪▪▪▪▪▪ ▪▪▪▪▪▪▪▪▪▪▪▪▪▪▪▪▪▪▪▪▪▪	▪▪▪▪▪▪▪▪▪▪▪▪▪▪▪▪▪▪▪▪▪▪▪▪▪▪▪▪▪▪▪▪▪▪▪▪▪▪▪▪▪▪▪▪▪▪▪▪▪
▪▪▪▪▪▪▪▪▪▪▪▪▪▪▪▪▪▪▪▪▪▪	▪▪▪▪▪▪▪▪▪▪▪ ▪▪▪▪▪▪▪▪▪▪▪▪▪▪▪▪▪▪▪▪▪▪▪▪▪▪▪▪▪▪▪▪▪▪▪▪▪▪▪▪▪▪▪▪▪▪▪▪▪▪▪▪▪▪▪▪▪▪▪▪▪▪▪▪▪▪▪▪▪▪▪▪▪▪▪▪▪▪▪▪▪▪▪▪▪▪▪▪	▪▪▪▪▪▪▪▪▪▪▪▪▪▪▪▪▪▪▪▪▪▪▪▪▪▪▪▪▪▪ ▪▪▪▪▪▪▪▪▪▪▪▪▪▪▪▪▪▪▪▪▪▪▪▪▪▪▪▪▪▪ ▪▪▪▪▪▪▪▪▪▪▪▪▪▪▪▪▪▪▪▪▪▪▪▪▪▪▪▪▪▪▪▪▪▪▪▪▪▪▪▪▪▪▪▪▪▪▪▪▪▪▪▪▪▪▪▪▪▪▪▪▪▪▪▪▪▪▪▪▪▪▪▪▪▪▪▪▪▪▪▪▪▪▪▪▪▪▪▪	▪▪▪▪▪▪▪▪▪▪▪▪▪▪▪▪▪▪▪▪▪▪ ▪▪▪▪▪▪▪▪▪▪▪▪▪▪▪▪▪▪▪▪▪▪	▪▪▪▪▪▪▪▪▪▪▪▪▪▪▪▪▪▪▪▪▪▪▪▪▪▪▪▪▪▪▪▪▪▪▪▪▪▪▪▪▪▪▪▪▪▪▪▪▪
▪▪▪▪▪▪▪▪▪▪▪▪▪▪▪▪▪▪▪▪▪▪	▪▪▪▪▪▪▪▪▪▪▪ ▪▪▪▪▪▪▪▪▪▪▪▪▪▪▪▪▪▪▪▪▪▪▪▪▪▪▪▪▪▪▪▪▪▪▪▪▪▪▪▪▪▪▪▪▪▪▪▪▪▪▪▪▪▪▪▪▪▪▪▪▪▪▪▪▪▪▪▪▪▪▪▪▪▪▪▪▪▪▪▪▪▪▪▪▪▪▪▪	▪▪▪▪▪▪▪▪▪▪▪▪▪▪▪▪▪▪▪▪▪▪▪▪▪▪▪▪▪▪ ▪▪▪▪▪▪▪▪▪▪▪▪▪▪▪▪▪▪▪▪▪▪▪▪▪▪▪▪▪▪ ▪▪▪▪▪▪▪▪▪▪▪▪▪▪▪▪▪▪▪▪▪▪▪▪▪▪▪▪▪▪▪▪▪▪▪▪▪▪▪▪▪▪▪▪▪▪▪▪▪▪▪▪▪▪▪▪▪▪▪▪▪▪▪▪▪▪▪▪▪▪▪▪▪▪▪▪▪▪▪▪▪▪▪▪▪▪▪▪	▪▪▪▪▪▪▪▪▪▪▪▪▪▪▪▪▪▪▪▪▪▪ ▪▪▪▪▪▪▪▪▪▪▪▪▪▪▪▪▪▪▪▪▪▪	▪▪▪▪▪▪▪▪▪▪▪▪▪▪▪▪▪▪▪▪▪▪▪▪▪▪▪▪▪▪▪▪▪▪▪▪▪▪▪▪▪▪▪▪▪▪▪▪▪
▪▪▪▪▪▪▪▪▪▪▪▪▪▪▪▪▪▪▪▪▪▪	▪▪▪▪▪▪▪▪▪▪▪ ▪▪▪▪▪▪▪▪▪▪▪▪▪▪▪▪▪▪▪▪▪▪▪▪▪▪▪▪▪▪▪▪▪▪▪▪▪▪▪▪▪▪▪▪▪▪▪▪▪▪▪▪▪▪▪▪▪▪▪▪▪▪▪▪▪▪▪▪▪▪▪▪▪▪▪▪▪▪▪▪▪▪▪▪▪▪▪▪	▪▪▪▪▪▪▪▪▪▪▪▪▪▪▪▪▪▪▪▪▪▪▪▪▪▪▪▪▪▪ ▪▪▪▪▪▪▪▪▪▪▪▪▪▪▪▪▪▪▪▪▪▪▪▪▪▪▪▪▪▪ ▪▪▪▪▪▪▪▪▪▪▪▪▪▪▪▪▪▪▪▪▪▪▪▪▪▪▪▪▪▪▪▪▪▪▪▪▪▪▪▪▪▪▪▪▪▪▪▪▪▪▪▪▪▪▪▪▪▪▪▪▪▪▪▪▪▪▪▪▪▪▪▪▪▪▪▪▪▪▪▪▪▪▪▪▪▪▪▪	▪▪▪▪▪▪▪▪▪▪▪▪▪▪▪▪▪▪▪▪▪▪ ▪▪▪▪▪▪▪▪▪▪▪▪▪▪▪▪▪▪▪▪▪▪	▪▪▪▪▪▪▪▪▪▪▪▪▪▪▪▪▪▪▪▪▪▪▪▪▪▪▪▪▪▪▪▪▪▪▪▪▪▪▪▪▪▪▪▪▪▪▪▪▪
▪▪▪▪▪▪▪▪▪▪▪▪▪▪▪▪▪▪▪▪▪▪	▪▪▪▪▪▪▪▪▪▪▪ ▪▪▪▪▪▪▪▪▪▪▪▪▪▪▪▪▪▪▪▪▪▪▪▪▪▪▪▪▪▪▪▪▪▪▪▪▪▪▪▪▪▪▪▪▪▪▪▪▪▪▪▪▪▪▪▪▪▪▪▪▪▪▪▪▪▪▪▪▪▪▪▪▪▪▪▪▪▪▪▪▪▪▪▪▪▪▪▪	▪▪▪▪▪▪▪▪▪▪▪▪▪▪▪▪▪▪▪▪▪▪▪▪▪▪▪▪▪▪ ▪▪▪▪▪▪▪▪▪▪▪▪▪▪▪▪▪▪▪▪▪▪▪▪▪▪▪▪▪▪ ▪▪▪▪▪▪▪▪▪▪▪▪▪▪▪▪▪▪▪▪▪▪▪▪▪▪▪▪▪▪▪▪▪▪▪▪▪▪▪▪▪▪▪▪▪▪▪▪▪▪▪▪▪▪▪▪▪▪▪▪▪▪▪▪▪▪▪▪▪▪▪▪▪▪▪▪▪▪▪▪▪▪▪▪▪▪▪▪	▪▪▪▪▪▪▪▪▪▪▪▪▪▪▪▪▪▪▪▪▪▪ ▪▪▪▪▪▪▪▪▪▪▪▪▪▪▪▪▪▪▪▪▪▪	▪▪▪▪▪▪▪▪▪▪▪▪▪▪▪▪▪▪▪▪▪▪▪▪▪▪▪▪▪▪▪▪▪▪▪▪▪▪▪▪▪▪▪▪▪▪▪▪▪
▪▪▪▪▪▪▪▪▪▪▪▪▪▪▪▪▪▪▪▪▪▪	▪▪▪▪▪▪▪▪▪▪▪ ▪▪▪▪▪▪▪▪▪▪▪▪▪▪▪▪▪▪▪▪▪▪▪▪▪▪▪▪▪▪▪▪▪▪▪▪▪▪▪▪▪▪▪▪▪▪▪▪▪▪▪▪▪▪▪▪▪▪▪▪▪▪▪▪▪▪▪▪▪▪▪▪▪▪▪▪▪▪▪▪▪▪▪▪▪▪▪▪	▪▪▪▪▪▪▪▪▪▪▪▪▪▪▪▪▪▪▪▪▪▪▪▪▪▪▪▪▪▪ ▪▪▪▪▪▪▪▪▪▪▪▪▪▪▪▪▪▪▪▪▪▪▪▪▪▪▪▪▪▪ ▪▪▪▪▪▪▪▪▪▪▪▪▪▪▪▪▪▪▪▪▪▪▪▪▪▪▪▪▪▪▪▪▪▪▪▪▪▪▪▪▪▪▪▪▪▪▪▪▪▪▪▪▪▪▪▪▪▪▪▪▪▪▪▪▪▪▪▪▪▪▪▪▪▪▪▪▪▪▪▪▪▪▪▪▪▪▪▪	▪▪▪▪▪▪▪▪▪▪▪▪▪▪▪▪▪▪▪▪▪▪ ▪▪▪▪▪▪▪▪▪▪▪▪▪▪▪▪▪▪▪▪▪▪	▪▪▪▪▪▪▪▪▪▪▪▪▪▪▪▪▪▪▪▪▪▪▪▪▪▪▪▪▪▪▪▪▪▪▪▪▪▪▪▪▪▪▪▪▪▪▪▪▪
▪▪▪▪▪▪▪▪▪▪▪▪▪▪▪▪▪▪▪▪▪▪	▪▪▪▪▪▪▪▪▪▪▪ ▪▪▪▪▪▪▪▪▪▪▪▪▪▪▪▪▪▪▪▪▪▪▪▪▪▪▪▪▪▪▪▪▪▪▪▪▪▪▪▪▪▪▪▪▪▪▪▪▪▪▪▪▪▪▪▪▪▪▪▪▪▪▪▪▪▪▪▪▪▪▪▪▪▪▪▪▪▪▪▪▪▪▪▪▪▪▪▪	▪▪▪▪▪▪▪▪▪▪▪▪▪▪▪▪▪▪▪▪▪▪▪▪▪▪▪▪▪▪ ▪▪▪▪▪▪▪▪▪▪▪▪▪▪▪▪▪▪▪▪▪▪▪▪▪▪▪▪▪▪ ▪▪▪▪▪▪▪▪▪▪▪▪▪▪▪▪▪▪▪▪▪▪▪▪▪▪▪▪▪▪▪▪▪▪▪▪▪▪▪▪▪▪▪▪▪▪▪▪▪▪▪▪▪▪▪▪▪▪▪▪▪▪▪▪▪▪▪▪▪▪▪▪▪▪▪▪▪▪▪▪▪▪▪▪▪▪▪▪	▪▪▪▪▪▪▪▪▪▪▪▪▪▪▪▪▪▪▪▪▪▪ ▪▪▪▪▪▪▪▪▪▪▪▪▪▪▪▪▪▪▪▪▪▪	▪▪▪▪▪▪▪▪▪▪▪▪▪▪▪▪▪▪▪▪▪▪▪▪▪▪▪▪▪▪▪▪▪▪▪▪▪▪▪▪▪▪▪▪▪▪▪▪▪
▪▪▪▪▪▪▪▪▪▪▪▪▪▪▪▪▪▪▪▪▪▪	▪▪▪▪▪▪▪▪▪▪▪ ▪▪▪▪▪▪▪▪▪▪▪▪▪▪▪▪▪▪▪▪▪▪▪▪▪▪▪▪▪▪▪▪▪▪▪▪▪▪▪▪▪▪▪▪▪▪▪▪▪▪▪▪▪▪▪▪▪▪▪▪▪▪▪▪▪▪▪▪▪▪▪▪▪▪▪▪▪▪▪▪▪▪▪▪▪▪▪▪	▪▪▪▪▪▪▪▪▪▪▪▪▪▪▪▪▪▪▪▪▪▪▪▪▪▪▪▪▪▪ ▪▪▪▪▪▪▪▪▪▪▪▪▪▪▪▪▪▪▪▪▪▪▪▪▪▪▪▪▪▪ ▪▪▪▪▪▪▪▪▪▪▪▪▪▪▪▪▪▪▪▪▪▪▪▪▪▪▪▪▪▪▪▪▪▪▪▪▪▪▪▪▪▪▪▪▪▪▪▪▪▪▪▪▪▪▪▪▪▪▪▪▪▪▪▪▪▪▪▪▪▪▪▪▪▪▪▪▪▪▪▪▪▪▪▪▪▪▪▪	▪▪▪▪▪▪▪▪▪▪▪▪▪▪▪▪▪▪▪▪▪▪ ▪▪▪▪▪▪▪▪▪▪▪▪▪▪▪▪▪▪▪▪▪▪	▪▪▪▪▪▪▪▪▪▪▪▪▪▪▪▪▪▪▪▪▪▪▪▪▪▪▪▪▪▪▪▪▪▪▪▪▪▪▪▪▪▪▪▪▪▪▪▪▪
▪▪▪▪▪▪▪▪▪▪▪▪▪▪▪▪▪▪▪▪▪▪	▪▪▪▪▪▪▪▪▪▪▪ ▪▪▪▪▪▪▪▪▪▪▪▪▪▪▪▪▪▪▪▪▪▪▪▪▪▪▪▪▪▪▪▪▪▪▪▪▪▪▪▪▪▪▪▪▪▪▪▪▪▪▪▪▪▪▪▪▪▪▪▪▪▪▪▪▪▪▪▪▪▪▪▪▪▪▪▪▪▪▪▪▪▪▪▪▪▪▪▪	▪▪▪▪▪▪▪▪▪▪▪▪▪▪▪▪▪▪▪▪▪▪▪▪▪▪▪▪▪▪ ▪▪▪▪▪▪▪▪▪▪▪▪▪▪▪▪▪▪▪▪▪▪▪▪▪▪▪▪▪▪ ▪▪▪▪▪▪▪▪▪▪▪▪▪▪▪▪▪▪▪▪▪▪▪▪▪▪▪▪▪▪▪▪▪▪▪▪▪▪▪▪▪▪▪▪▪▪▪▪▪▪▪▪▪▪▪▪▪▪▪▪▪▪▪▪▪▪▪▪▪▪▪▪▪▪▪▪▪▪▪▪▪▪▪▪▪▪▪▪	▪▪▪▪▪▪▪▪▪▪▪▪▪▪▪▪▪▪▪▪▪▪ ▪▪▪▪▪▪▪▪▪▪▪▪▪▪▪▪▪▪▪▪▪▪	▪▪▪▪▪▪▪▪▪▪▪▪▪▪▪▪▪▪▪▪▪▪▪▪▪▪▪▪▪▪▪▪▪▪▪▪▪▪▪▪▪▪▪▪▪▪▪▪▪
▪▪▪▪▪▪▪▪▪▪▪▪▪▪▪▪▪▪▪▪▪▪	▪▪▪▪▪▪▪▪▪▪▪ ▪▪▪▪▪▪▪▪▪▪▪▪▪▪▪▪▪▪▪▪▪▪▪▪▪▪▪▪▪▪▪▪▪▪▪▪▪▪▪▪▪▪▪▪▪▪▪▪▪▪▪▪▪▪▪▪▪▪▪▪▪▪▪▪▪▪▪▪▪▪▪▪▪▪▪▪▪▪▪▪▪▪▪▪▪▪▪▪	▪▪▪▪▪▪▪▪▪▪▪▪▪▪▪▪▪▪▪▪▪▪▪▪▪▪▪▪▪▪ ▪▪▪▪▪▪▪▪▪▪▪▪▪▪▪▪▪▪▪▪▪▪▪▪▪▪▪▪▪▪ ▪▪▪▪▪▪▪▪▪▪▪▪▪▪▪▪▪▪▪▪▪▪▪▪▪▪▪▪▪▪▪▪▪▪▪▪▪▪▪▪▪▪▪▪▪▪▪▪▪▪▪▪▪▪▪▪▪▪▪▪▪▪▪▪▪▪▪▪▪▪▪▪▪▪▪▪▪▪▪▪▪▪▪▪▪▪▪▪	▪▪▪▪▪▪▪▪▪▪▪▪▪▪▪▪▪▪▪▪▪▪ ▪▪▪▪▪▪▪▪▪▪▪▪▪▪▪▪▪▪▪▪▪▪	▪▪▪▪▪▪▪▪▪▪▪▪▪▪▪▪▪▪▪▪▪▪▪▪▪▪▪▪▪▪▪▪▪▪▪▪▪▪▪▪▪▪▪▪▪▪▪▪▪
▪▪▪▪▪▪▪▪▪▪▪▪▪▪▪▪▪▪▪▪▪▪	▪▪▪▪▪▪▪▪▪▪▪ ▪▪▪▪▪▪▪▪▪▪▪▪▪▪▪▪▪▪▪▪▪▪▪▪▪▪▪▪▪▪▪▪▪▪▪▪▪▪▪▪▪▪▪▪▪▪▪▪▪▪▪▪▪▪▪▪▪▪▪▪▪▪▪▪▪▪▪▪▪▪▪▪▪▪▪▪▪▪▪▪▪▪▪▪▪▪▪▪	▪▪▪▪▪▪▪▪▪▪▪▪▪▪▪▪▪▪▪▪▪▪▪▪▪▪▪▪▪▪ ▪▪▪▪▪▪▪▪▪▪▪▪▪▪▪▪▪▪▪▪▪▪▪▪▪▪▪▪▪▪ ▪▪▪▪▪▪▪▪▪▪▪▪▪▪▪▪▪▪▪▪▪▪▪▪▪▪▪▪▪▪▪▪▪▪▪▪▪▪▪▪▪▪▪▪▪▪▪▪▪▪▪▪▪▪▪▪▪▪▪▪▪▪▪▪▪▪▪▪▪▪▪▪▪▪▪▪▪▪▪▪▪▪▪▪▪▪▪▪	▪▪▪▪▪▪▪▪▪▪▪▪▪▪▪▪▪▪▪▪▪▪ ▪▪▪▪▪▪▪▪▪▪▪▪▪▪▪▪▪▪▪▪▪▪	▪▪▪▪▪▪▪▪▪▪▪▪▪▪▪▪▪▪▪▪▪▪▪▪▪▪▪▪▪▪▪▪▪▪▪▪▪▪▪▪▪▪▪▪▪▪▪▪▪
▪▪▪▪▪▪▪▪▪▪▪▪▪▪▪▪▪▪▪▪▪▪	▪▪▪▪▪▪▪▪▪▪▪ ▪▪▪▪▪▪▪▪▪▪▪▪▪▪▪▪▪▪▪▪▪▪▪▪▪▪▪▪▪▪▪▪▪▪▪▪▪▪▪▪▪▪▪▪▪▪▪▪▪▪▪▪▪▪▪▪▪▪▪▪▪▪▪▪▪▪▪▪▪▪▪▪▪▪▪▪▪▪▪▪▪▪▪▪▪▪▪▪	▪▪▪▪▪▪▪▪▪▪▪▪▪▪▪▪▪▪▪▪▪▪▪▪▪▪▪▪▪▪ ▪▪▪▪▪▪▪▪▪▪▪▪▪▪▪▪▪▪▪▪▪▪▪▪▪▪▪▪▪▪ ▪▪▪▪▪▪▪▪▪▪▪▪▪▪▪▪▪▪▪▪▪▪▪▪▪▪▪▪▪▪▪▪▪▪▪▪▪▪▪▪▪▪▪▪▪▪▪▪▪▪▪▪▪▪▪▪▪▪▪▪▪▪▪▪▪▪▪▪▪▪▪▪▪▪▪▪▪▪▪▪▪▪▪▪▪▪▪▪	▪▪▪▪▪▪▪▪▪▪▪▪▪▪▪▪▪▪▪▪▪▪ ▪▪▪▪▪▪▪▪▪▪▪▪▪▪▪▪▪▪▪▪▪▪	▪▪▪▪▪▪▪▪▪▪▪▪▪▪▪▪▪▪▪▪▪▪▪▪▪▪▪▪▪▪▪▪▪▪▪▪▪▪▪▪▪▪▪▪▪▪▪▪▪
▪▪▪▪▪▪▪▪▪▪▪▪▪▪▪▪▪▪▪▪▪▪	▪▪▪▪▪▪▪▪▪▪▪ ▪▪▪▪▪▪▪▪▪▪▪▪▪▪▪▪▪▪▪▪▪▪▪▪▪▪▪▪▪▪▪▪▪▪▪▪▪▪▪▪▪▪▪▪▪▪▪▪▪▪▪▪▪▪▪▪▪▪▪▪▪▪▪▪▪▪▪▪▪▪▪▪▪▪▪▪▪▪▪▪▪▪▪▪▪▪▪▪	▪▪▪▪▪▪▪▪▪▪▪▪▪▪▪▪▪▪▪▪▪▪▪▪▪▪▪▪▪▪ ▪▪▪▪▪▪▪▪▪▪▪▪▪▪▪▪▪▪▪▪▪▪▪▪▪▪▪▪▪▪ ▪▪▪▪▪▪▪▪▪▪▪▪▪▪▪▪▪▪▪▪▪▪▪▪▪▪▪▪▪▪▪▪▪▪▪▪▪▪▪▪▪▪▪▪▪▪▪▪▪▪▪▪▪▪▪▪▪▪▪▪▪▪▪▪▪▪▪▪▪▪▪▪▪▪▪▪▪▪▪▪▪▪▪▪▪▪▪▪	▪▪▪▪▪▪▪▪▪▪▪▪▪▪▪▪▪▪▪▪▪▪ ▪▪▪▪▪▪▪▪▪▪▪▪▪▪▪▪▪▪▪▪▪▪	▪▪▪▪▪▪▪▪▪▪▪▪▪▪▪▪▪▪▪▪▪▪▪▪▪▪▪▪▪▪▪▪▪▪▪▪▪▪▪▪▪▪▪▪▪▪▪▪▪
▪▪▪▪▪▪▪▪▪▪▪▪▪▪▪▪▪▪▪▪▪▪	▪▪▪▪▪▪▪▪▪▪▪ ▪▪▪▪▪▪▪▪▪▪▪▪▪▪▪▪▪▪▪▪▪▪▪▪▪▪▪▪▪▪▪▪▪▪▪▪▪▪▪▪▪▪▪▪▪▪▪▪▪▪▪▪▪▪▪▪▪▪▪▪▪▪▪▪▪▪▪▪▪▪▪▪▪▪▪▪▪▪▪▪▪▪▪▪▪▪▪▪	▪▪▪▪▪▪▪▪▪▪▪▪▪▪▪▪▪▪▪▪▪▪▪▪▪▪▪▪▪▪ ▪▪▪▪▪▪▪▪▪▪▪▪▪▪▪▪▪▪▪▪▪▪▪▪▪▪▪▪▪▪ ▪▪▪▪▪▪▪▪▪▪▪▪▪▪▪▪▪▪▪▪▪▪▪▪▪▪▪▪▪▪▪▪▪▪▪▪▪▪▪▪▪▪▪▪▪▪▪▪▪▪▪▪▪▪▪▪▪▪▪▪▪▪▪▪▪▪▪▪▪▪▪▪▪▪▪▪▪▪▪▪▪▪▪▪▪▪▪▪	▪▪▪▪▪▪▪▪▪▪▪▪▪▪▪▪▪▪▪▪▪▪ ▪▪▪▪▪▪▪▪▪▪▪▪▪▪▪▪▪▪▪▪▪▪	▪▪▪▪▪▪▪▪▪▪▪▪▪▪▪▪▪▪▪▪▪▪▪▪▪▪▪▪▪▪▪▪▪▪▪▪▪▪▪▪▪▪▪▪▪▪▪▪▪
▪▪▪▪▪▪▪▪▪▪▪▪▪▪▪▪▪▪▪▪▪▪	▪▪▪▪▪▪▪▪▪▪▪ ▪▪▪▪▪▪▪▪▪▪▪▪▪▪▪▪▪▪▪▪▪▪▪▪▪▪▪▪▪▪▪▪▪▪▪▪▪▪▪▪▪▪▪▪▪▪▪▪▪▪▪▪▪▪▪▪▪▪▪▪▪▪▪▪▪▪▪▪▪▪▪▪▪▪▪▪▪▪▪▪▪▪▪▪▪▪▪▪	▪▪▪▪▪▪▪▪▪▪▪▪▪▪▪▪▪▪▪▪▪▪▪▪▪▪▪▪▪▪ ▪▪▪▪▪▪▪▪▪▪▪▪▪▪▪▪▪▪▪▪▪▪▪▪▪▪▪▪▪▪ ▪▪▪▪▪▪▪▪▪▪▪▪▪▪▪▪▪▪▪▪▪▪▪▪▪▪▪▪▪▪▪▪▪▪▪▪▪▪▪▪▪▪▪▪▪▪▪▪▪▪▪▪▪▪▪▪▪▪▪▪▪▪▪▪▪▪▪▪▪▪▪▪▪▪▪▪▪▪▪▪▪▪▪▪▪▪▪▪	▪▪▪▪▪▪▪▪▪▪▪▪▪▪▪▪▪▪▪▪▪▪ ▪▪▪▪▪▪▪▪▪▪▪▪▪▪▪▪▪▪▪▪▪▪	▪▪▪▪▪▪▪▪▪▪▪▪▪▪▪▪▪▪▪▪▪▪▪▪▪▪▪▪▪▪▪▪▪▪▪▪▪▪▪▪▪▪▪▪▪▪▪▪▪
